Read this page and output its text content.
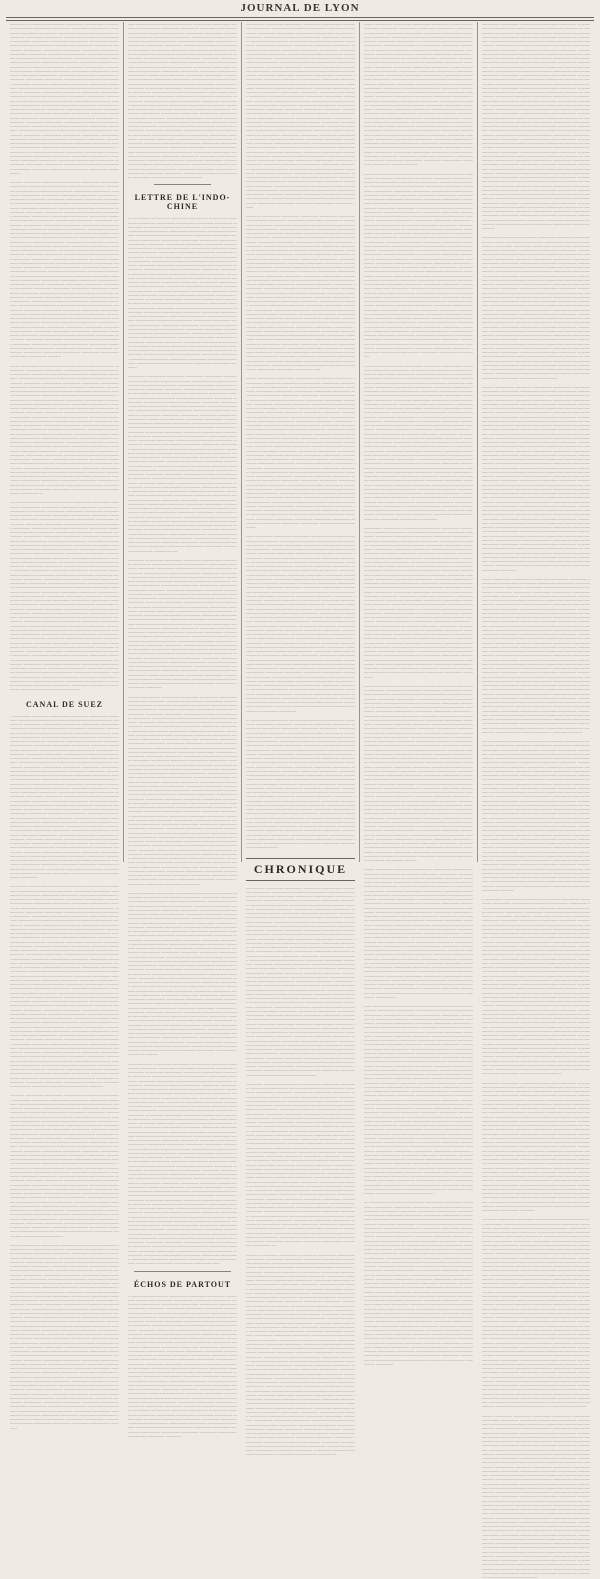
JOURNAL DE LYON
‒‒‒‒‒‒‒‒‒ ‒‒‒‒‒‒‒‒‒‒ ‒‒‒‒‒‒‒‒‒‒ ‒‒‒‒‒‒‒‒‒‒ ‒‒‒‒‒‒‒‒‒‒ ‒‒‒‒‒‒‒‒‒‒ ‒‒‒‒‒‒‒‒‒‒ ‒‒‒‒‒‒‒‒‒‒ ‒‒‒‒‒‒‒‒‒‒ ‒‒‒‒‒‒‒‒‒‒ ‒‒‒‒‒‒‒‒‒‒ ‒‒‒‒‒‒‒‒‒‒ ‒‒‒‒‒‒‒‒‒‒ ‒‒‒‒‒‒‒‒‒‒ ‒‒‒‒‒‒‒‒‒‒ ‒‒‒‒‒‒‒‒‒‒ ‒‒‒‒‒‒‒‒‒‒ ‒‒‒‒‒‒‒‒‒‒ ‒‒‒‒‒‒‒‒‒‒ ‒‒‒‒‒‒‒‒‒‒ ‒‒‒‒‒‒‒‒‒‒ ‒‒‒‒‒‒‒‒‒‒ ‒‒‒‒‒‒‒‒‒‒ ‒‒‒‒‒‒‒‒‒‒ ‒‒‒‒‒‒‒‒‒‒ ‒‒‒‒‒‒‒‒‒‒ ‒‒‒‒‒‒‒‒‒‒ ‒‒‒‒‒‒‒‒‒‒ ‒‒‒‒‒‒‒‒‒‒ ‒‒‒‒‒‒‒‒‒‒ ‒‒‒‒‒‒‒‒‒‒ ‒‒‒‒‒‒‒‒‒‒ ‒‒‒‒‒‒‒‒‒‒ ‒‒‒‒‒‒‒‒‒‒ ‒‒‒‒‒‒‒‒‒‒ ‒‒‒‒‒‒‒‒‒‒ ‒‒‒‒‒‒‒‒‒‒ ‒‒‒‒‒‒‒‒‒‒ ‒‒‒‒‒‒‒‒‒‒ ‒‒‒‒‒‒‒‒‒‒ ‒‒‒‒‒‒‒‒‒‒ ‒‒‒‒‒‒‒‒‒‒ ‒‒‒‒‒‒‒‒‒‒ ‒‒‒‒‒‒‒‒‒‒ ‒‒‒‒‒‒‒‒‒‒ ‒‒‒‒‒‒‒‒‒‒ ‒‒‒‒‒‒‒‒‒‒ ‒‒‒‒‒‒‒‒‒‒ ‒‒‒‒‒‒‒‒‒‒ ‒‒‒‒‒‒‒‒‒‒ ‒‒‒‒‒‒‒‒‒‒ ‒‒‒‒‒‒‒‒‒‒ ‒‒‒‒‒‒‒‒‒‒ ‒‒‒‒‒‒‒‒‒‒ ‒‒‒‒‒‒‒‒‒‒ ‒‒‒‒‒‒‒‒‒‒ ‒‒‒‒‒‒‒‒‒‒ ‒‒‒‒‒‒‒‒‒‒ ‒‒‒‒‒‒‒‒‒‒ ‒‒‒‒‒‒‒‒‒‒ ‒‒‒‒‒‒‒‒‒‒ ‒‒‒‒‒‒‒‒‒‒ ‒‒‒‒‒‒‒‒‒‒ ‒‒‒‒‒‒‒‒‒‒ ‒‒‒‒‒‒‒‒‒‒ ‒‒‒‒‒‒‒‒‒‒ ‒‒‒‒‒‒‒‒‒‒ ‒‒‒‒‒‒‒‒‒‒ ‒‒‒‒‒‒‒‒‒‒ ‒‒‒‒‒‒‒‒‒‒ ‒‒‒‒‒‒‒‒‒‒ ‒‒‒‒‒‒‒‒‒‒ ‒‒‒‒‒‒‒‒‒‒ ‒‒‒‒‒‒‒‒‒‒ ‒‒‒‒‒‒‒‒‒‒ ‒‒‒‒‒‒‒‒‒‒ ‒‒‒‒‒‒‒‒‒‒ ‒‒‒‒‒‒‒‒‒‒ ‒‒‒‒‒‒‒‒‒‒ ‒‒‒‒‒‒‒‒‒‒ ‒‒‒‒‒‒‒‒‒‒ ‒‒‒‒‒‒‒‒‒‒ ‒‒‒‒‒‒‒‒‒‒ ‒‒‒‒‒‒‒‒‒‒ ‒‒‒‒‒‒‒‒‒‒ ‒‒‒‒‒‒‒‒‒‒ ‒‒‒‒‒‒‒‒‒‒ ‒‒‒‒‒‒‒‒‒‒ ‒‒‒‒‒‒‒‒‒‒ ‒‒‒‒‒‒‒‒‒‒ ‒‒‒‒‒‒‒‒‒‒ ‒‒‒‒‒‒‒‒‒‒ ‒‒‒‒‒‒‒‒‒‒ ‒‒‒‒‒‒‒‒‒‒ ‒‒‒‒‒‒‒‒‒‒ ‒‒‒‒‒‒‒‒‒‒ ‒‒‒‒‒‒‒‒‒‒ ‒‒‒‒‒‒‒‒‒‒ ‒‒‒‒‒‒‒‒‒‒ ‒‒‒‒‒‒‒‒‒‒ ‒‒‒‒‒‒‒‒‒‒ ‒‒‒‒‒‒‒‒‒‒ ‒‒‒‒‒‒‒‒‒‒ ‒‒‒‒‒‒‒‒‒‒ ‒‒‒‒‒‒‒‒‒‒ ‒‒‒‒‒‒‒‒‒‒ ‒‒‒‒‒‒‒‒‒‒ ‒‒‒‒‒‒‒‒‒‒ ‒‒‒‒‒‒‒‒‒‒ ‒‒‒‒‒‒‒‒‒‒ ‒‒‒‒‒‒‒‒‒‒ ‒‒‒‒‒‒‒‒‒‒ ‒‒‒‒‒‒‒‒‒‒ ‒‒‒‒‒‒‒‒‒‒ ‒‒‒‒‒‒‒‒‒‒ ‒‒‒‒‒‒‒‒‒‒ ‒‒‒‒‒‒‒‒‒‒ ‒‒‒‒‒‒‒‒‒‒ ‒‒‒‒‒‒‒‒‒‒ ‒‒‒‒‒‒‒‒‒‒ ‒‒‒‒‒‒‒‒‒‒ ‒‒‒‒‒‒‒‒‒‒ ‒‒‒‒‒‒‒‒‒‒ ‒‒‒‒‒‒‒‒‒‒ ‒‒‒‒‒‒‒‒‒‒ ‒‒‒‒‒‒‒‒‒‒ ‒‒‒‒‒‒‒‒‒‒ ‒‒‒‒‒‒‒‒‒‒ ‒‒‒‒‒‒‒‒‒‒ ‒‒‒‒‒‒‒‒‒‒ ‒‒‒‒‒‒‒‒‒‒ ‒‒‒‒‒‒‒‒‒‒ ‒‒‒‒‒‒‒‒‒‒ ‒‒‒‒‒‒‒‒‒‒ ‒‒‒‒‒‒‒‒‒‒ ‒‒‒‒‒‒‒‒‒‒ ‒‒‒‒‒‒‒‒‒‒ ‒‒‒‒‒‒‒‒‒‒ ‒‒‒‒‒‒‒‒‒‒ ‒‒‒‒‒‒‒‒‒‒ ‒‒‒‒‒‒‒‒‒‒ ‒‒‒‒‒‒‒‒‒‒ ‒‒‒‒‒‒‒‒‒‒ ‒‒‒‒‒‒‒‒‒‒ ‒‒‒‒‒‒‒‒‒‒ ‒‒‒‒‒‒‒‒‒‒ ‒‒‒‒‒‒‒‒‒‒ ‒‒‒‒‒‒‒‒‒‒ ‒‒‒‒‒‒‒‒‒‒ ‒‒‒‒‒‒‒‒‒‒ ‒‒‒‒‒‒‒‒‒‒ ‒‒‒‒‒‒‒‒‒‒ ‒‒‒‒‒‒‒‒‒‒ ‒‒‒‒‒‒‒‒‒‒ ‒‒‒‒‒‒‒‒‒‒ ‒‒‒‒‒‒‒‒‒‒ ‒‒‒‒‒‒‒‒‒‒ ‒‒‒‒‒‒‒‒‒‒ ‒‒‒‒‒‒‒‒‒‒ ‒‒‒‒‒‒‒‒‒‒ ‒‒‒‒‒‒‒‒‒‒ ‒‒‒‒‒‒‒‒‒‒ ‒‒‒‒‒‒‒‒‒‒ ‒‒‒‒‒‒‒‒‒‒ ‒‒‒‒‒‒‒‒‒‒ ‒‒‒‒‒‒‒‒‒‒ ‒‒‒‒‒‒‒‒‒‒ ‒‒‒‒‒‒‒‒‒‒ ‒‒‒‒‒‒‒‒‒‒ ‒‒‒‒‒‒‒‒‒‒ ‒‒‒‒‒‒‒‒‒‒ ‒‒‒‒‒‒‒‒‒‒ ‒‒‒‒‒‒‒‒‒‒ ‒‒‒‒‒‒‒‒‒‒ ‒‒‒‒‒‒‒‒‒‒ ‒‒‒‒‒‒‒‒‒‒ ‒‒‒‒‒‒‒‒‒‒ ‒‒‒‒‒‒‒‒‒‒ ‒‒‒‒‒‒‒‒‒‒ ‒‒‒‒‒‒‒‒‒‒ ‒‒‒‒‒‒‒‒‒‒ ‒‒‒‒‒‒‒‒‒‒ ‒‒‒‒‒‒‒‒‒‒ ‒‒‒‒‒‒‒‒‒‒ ‒‒‒‒‒‒‒‒‒‒ ‒‒‒‒‒‒‒‒‒‒ ‒‒‒‒‒‒‒‒‒‒ ‒‒‒‒‒‒‒‒‒‒ ‒‒‒‒‒‒‒‒‒‒ ‒‒‒‒‒‒‒‒‒‒ ‒‒‒‒‒‒‒‒‒‒ ‒‒‒‒‒‒‒‒‒‒ ‒‒‒‒‒‒‒‒‒‒ ‒‒‒‒‒‒‒‒‒‒ ‒‒‒‒‒‒‒‒‒‒ ‒‒‒‒‒‒‒‒‒‒ ‒‒‒‒‒‒‒‒‒‒ ‒‒‒‒‒‒‒‒‒‒ ‒‒‒‒‒‒‒‒‒‒ ‒‒‒‒‒‒‒‒‒‒ ‒
‒‒‒‒‒‒‒ ‒‒‒‒‒‒‒‒‒‒ ‒‒‒‒‒‒‒‒‒‒ ‒‒‒‒‒‒‒‒‒‒ ‒‒‒‒‒‒‒‒‒‒ ‒‒‒‒‒‒‒‒‒‒ ‒‒‒‒‒‒‒‒‒‒ ‒‒‒‒‒‒‒‒‒‒ ‒‒‒‒‒‒‒‒‒‒ ‒‒‒‒‒‒‒‒‒‒ ‒‒‒‒‒‒‒‒‒‒ ‒‒‒‒‒‒‒‒‒‒ ‒‒‒‒‒‒‒‒‒‒ ‒‒‒‒‒‒‒‒‒‒ ‒‒‒‒‒‒‒‒‒‒ ‒‒‒‒‒‒‒‒‒‒ ‒‒‒‒‒‒‒‒‒‒ ‒‒‒‒‒‒‒‒‒‒ ‒‒‒‒‒‒‒‒‒‒ ‒‒‒‒‒‒‒‒‒‒ ‒‒‒‒‒‒‒‒‒‒ ‒‒‒‒‒‒‒‒‒‒ ‒‒‒‒‒‒‒‒‒‒ ‒‒‒‒‒‒‒‒‒‒ ‒‒‒‒‒‒‒‒‒‒ ‒‒‒‒‒‒‒‒‒‒ ‒‒‒‒‒‒‒‒‒‒ ‒‒‒‒‒‒‒‒‒‒ ‒‒‒‒‒‒‒‒‒‒ ‒‒‒‒‒‒‒‒‒‒ ‒‒‒‒‒‒‒‒‒‒ ‒‒‒‒‒‒‒‒‒‒ ‒‒‒‒‒‒‒‒‒‒ ‒‒‒‒‒‒‒‒‒‒ ‒‒‒‒‒‒‒‒‒‒ ‒‒‒‒‒‒‒‒‒‒ ‒‒‒‒‒‒‒‒‒‒ ‒‒‒‒‒‒‒‒‒‒ ‒‒‒‒‒‒‒‒‒‒ ‒‒‒‒‒‒‒‒‒‒ ‒‒‒‒‒‒‒‒‒‒ ‒‒‒‒‒‒‒‒‒‒ ‒‒‒‒‒‒‒‒‒‒ ‒‒‒‒‒‒‒‒‒‒ ‒‒‒‒‒‒‒‒‒‒ ‒‒‒‒‒‒‒‒‒‒ ‒‒‒‒‒‒‒‒‒‒ ‒‒‒‒‒‒‒‒‒‒ ‒‒‒‒‒‒‒‒‒‒ ‒‒‒‒‒‒‒‒‒‒ ‒‒‒‒‒‒‒‒‒‒ ‒‒‒‒‒‒‒‒‒‒ ‒‒‒‒‒‒‒‒‒‒ ‒‒‒‒‒‒‒‒‒‒ ‒‒‒‒‒‒‒‒‒‒ ‒‒‒‒‒‒‒‒‒‒ ‒‒‒‒‒‒‒‒‒‒ ‒‒‒‒‒‒‒‒‒‒ ‒‒‒‒‒‒‒‒‒‒ ‒‒‒‒‒‒‒‒‒‒ ‒‒‒‒‒‒‒‒‒‒ ‒‒‒‒‒‒‒‒‒‒ ‒‒‒‒‒‒‒‒‒‒ ‒‒‒‒‒‒‒‒‒‒ ‒‒‒‒‒‒‒‒‒‒ ‒‒‒‒‒‒‒‒‒‒ ‒‒‒‒‒‒‒‒‒‒ ‒‒‒‒‒‒‒‒‒‒ ‒‒‒‒‒‒‒‒‒‒ ‒‒‒‒‒‒‒‒‒‒ ‒‒‒‒‒‒‒‒‒‒ ‒‒‒‒‒‒‒‒‒‒ ‒‒‒‒‒‒‒‒‒‒ ‒‒‒‒‒‒‒‒‒‒ ‒‒‒‒‒‒‒‒‒‒ ‒‒‒‒‒‒‒‒‒‒ ‒‒‒‒‒‒‒‒‒‒ ‒‒‒‒‒‒‒‒‒‒ ‒‒‒‒‒‒‒‒‒‒ ‒‒‒‒‒‒‒‒‒‒ ‒‒‒‒‒‒‒‒‒‒ ‒‒‒‒‒‒‒‒‒‒ ‒‒‒‒‒‒‒‒‒‒ ‒‒‒‒‒‒‒‒‒‒ ‒‒‒‒‒‒‒‒‒‒ ‒‒‒‒‒‒‒‒‒‒ ‒‒‒‒‒‒‒‒‒‒ ‒‒‒‒‒‒‒‒‒‒ ‒‒‒‒‒‒‒‒‒‒ ‒‒‒‒‒‒‒‒‒‒ ‒‒‒‒‒‒‒‒‒‒ ‒‒‒‒‒‒‒‒‒‒ ‒‒‒‒‒‒‒‒‒‒ ‒‒‒‒‒‒‒‒‒‒ ‒‒‒‒‒‒‒‒‒‒ ‒‒‒‒‒‒‒‒‒‒ ‒‒‒‒‒‒‒‒‒‒ ‒‒‒‒‒‒‒‒‒‒ ‒‒‒‒‒‒‒‒‒‒ ‒‒‒‒‒‒‒‒‒‒ ‒‒‒‒‒‒‒‒‒‒ ‒‒‒‒‒‒‒‒‒‒ ‒‒‒‒‒‒‒‒‒‒ ‒‒‒‒‒‒‒‒‒‒ ‒‒‒‒‒‒‒‒‒‒ ‒‒‒‒‒‒‒‒‒‒ ‒‒‒‒‒‒‒‒‒‒ ‒‒‒‒‒‒‒‒‒‒ ‒‒‒‒‒‒‒‒‒‒ ‒‒‒‒‒‒‒‒‒‒ ‒‒‒‒‒‒‒‒‒‒ ‒‒‒‒‒‒‒‒‒‒ ‒‒‒‒‒‒‒‒‒‒ ‒‒‒‒‒‒‒‒‒‒ ‒‒‒‒‒‒‒‒‒‒ ‒‒‒‒‒‒‒‒‒‒ ‒‒‒‒‒‒‒‒‒‒ ‒‒‒‒‒‒‒‒‒‒ ‒‒‒‒‒‒‒‒‒‒ ‒‒‒‒‒‒‒‒‒‒ ‒‒‒‒‒‒‒‒‒‒ ‒‒‒‒‒‒‒‒‒‒ ‒‒‒‒‒‒‒‒‒‒ ‒‒‒‒‒‒‒‒‒‒ ‒‒‒‒‒‒‒‒‒‒ ‒‒‒‒‒‒‒‒‒‒ ‒‒‒‒‒‒‒‒‒‒ ‒‒‒‒‒‒‒‒‒‒ ‒‒‒‒‒‒‒‒‒‒ ‒‒‒‒‒‒‒‒‒‒ ‒‒‒‒‒‒‒‒‒‒ ‒‒‒‒‒‒‒‒‒‒ ‒‒‒‒‒‒‒‒‒‒ ‒‒‒‒‒‒‒‒‒‒ ‒‒‒‒‒‒‒‒‒‒ ‒‒‒‒‒‒‒‒‒‒ ‒‒‒‒‒‒‒‒‒‒ ‒‒‒‒‒‒‒‒‒‒ ‒‒‒‒‒‒‒‒‒‒ ‒‒‒‒‒‒‒‒‒‒ ‒‒‒‒‒‒‒‒‒‒ ‒‒‒‒‒‒‒‒‒‒ ‒‒‒‒‒‒‒‒‒‒ ‒‒‒‒‒‒‒‒‒‒ ‒‒‒‒‒‒‒‒‒‒ ‒‒‒‒‒‒‒‒‒‒ ‒‒‒‒‒‒‒‒‒‒ ‒‒‒‒‒‒‒‒‒‒ ‒‒‒‒‒‒‒‒‒‒ ‒‒‒‒‒‒‒‒‒‒ ‒‒‒‒‒‒‒‒‒‒ ‒‒‒‒‒‒‒‒‒‒ ‒‒‒‒‒‒‒‒‒‒ ‒‒‒‒‒‒‒‒‒‒ ‒‒‒‒‒‒‒‒‒‒ ‒‒‒‒‒‒‒‒‒‒ ‒‒‒‒‒‒‒‒‒‒ ‒‒‒‒‒‒‒‒‒‒ ‒‒‒‒‒‒‒‒‒‒ ‒‒‒‒‒‒‒‒‒‒ ‒‒‒‒‒‒‒‒‒‒ ‒‒‒‒‒‒‒‒‒‒ ‒‒‒‒‒‒‒‒‒‒ ‒‒‒‒‒‒‒‒‒‒ ‒‒‒‒‒‒‒‒‒‒ ‒‒‒‒‒‒‒‒‒‒ ‒‒‒‒‒‒‒‒‒‒ ‒‒‒‒‒‒‒‒‒‒ ‒‒‒‒‒‒‒‒‒‒ ‒‒‒‒‒‒‒‒‒‒ ‒‒‒‒‒‒‒‒‒‒ ‒‒‒‒‒‒‒‒‒‒ ‒‒‒‒‒‒‒‒‒‒ ‒‒‒‒‒‒‒‒‒‒ ‒‒‒‒‒‒‒‒‒‒ ‒‒‒‒‒‒‒‒‒‒ ‒‒‒‒‒‒‒‒‒‒ ‒‒‒‒‒‒‒‒‒‒ ‒‒‒‒‒‒‒‒‒‒ ‒‒‒‒‒‒‒‒‒‒ ‒‒‒‒‒‒‒‒‒‒ ‒‒‒‒‒‒‒‒‒‒ ‒‒‒‒‒‒‒‒‒‒ ‒‒‒‒‒‒‒‒‒‒ ‒‒‒‒‒‒‒‒‒‒ ‒‒‒‒‒‒‒‒‒‒ ‒‒‒‒‒‒‒‒‒‒ ‒‒‒‒‒‒‒‒‒‒ ‒‒‒‒‒‒‒‒‒‒ ‒‒‒‒‒‒‒‒‒‒ ‒‒‒‒‒‒‒‒‒‒ ‒‒‒‒‒‒‒‒‒‒ ‒‒‒‒‒‒‒‒‒‒ ‒‒‒‒‒‒‒‒‒‒ ‒‒‒‒‒‒‒‒‒‒ ‒‒‒‒‒‒‒‒‒‒ ‒‒‒‒‒‒‒‒‒‒ ‒‒‒‒‒‒‒‒‒‒ ‒‒‒‒‒‒‒‒‒‒ ‒‒‒‒‒‒‒‒‒‒ ‒‒‒‒‒‒‒‒‒‒ ‒‒‒‒‒‒‒‒‒‒ ‒‒‒‒‒‒‒‒‒‒ ‒‒‒‒‒‒‒‒‒‒ ‒‒‒‒‒‒‒‒‒‒ ‒‒‒‒‒‒‒‒‒‒ ‒‒‒‒‒‒‒‒‒‒ ‒‒‒‒‒‒‒‒‒‒ ‒‒‒‒‒‒‒‒‒‒ ‒‒‒‒‒‒‒‒‒‒ ‒‒‒‒‒‒‒‒‒‒ ‒‒‒‒‒‒‒‒‒‒ ‒‒‒‒‒‒‒‒‒‒ ‒‒‒‒‒‒‒‒‒‒ ‒‒‒‒‒‒‒‒‒‒ ‒‒‒‒‒‒‒‒‒‒ ‒‒‒‒‒‒‒‒‒‒ ‒‒‒‒‒‒‒‒‒‒ ‒‒‒‒‒‒‒‒‒‒ ‒‒‒‒‒‒‒‒‒‒ ‒‒‒‒‒‒‒‒‒‒ ‒‒‒‒‒‒‒‒‒‒ ‒‒‒‒‒‒‒‒‒‒ ‒‒‒‒‒‒‒‒‒‒ ‒‒‒‒‒‒‒‒‒‒ ‒‒‒‒‒‒‒‒‒‒ ‒‒‒‒‒‒‒‒‒‒ ‒‒‒‒‒‒‒‒‒‒ ‒‒‒‒‒‒‒‒‒‒ ‒‒‒‒‒‒‒‒‒‒ ‒‒‒‒‒‒‒‒‒‒ ‒‒‒‒‒‒‒‒‒‒ ‒‒‒‒‒‒‒‒‒‒ ‒‒‒‒‒‒‒‒‒‒ ‒‒‒‒‒‒‒‒‒‒ ‒‒‒‒‒‒‒‒‒‒ ‒‒‒‒‒‒‒
‒‒‒‒‒ ‒‒‒‒‒‒‒‒‒‒ ‒‒‒‒‒‒‒‒‒‒ ‒‒‒‒‒‒‒‒‒‒ ‒‒‒‒‒‒‒‒‒‒ ‒‒‒‒‒‒‒‒‒‒ ‒‒‒‒‒‒‒‒‒‒ ‒‒‒‒‒‒‒‒‒‒ ‒‒‒‒‒‒‒‒‒‒ ‒‒‒‒‒‒‒‒‒‒ ‒‒‒‒‒‒‒‒‒‒ ‒‒‒‒‒‒‒‒‒‒ ‒‒‒‒‒‒‒‒‒‒ ‒‒‒‒‒‒‒‒‒‒ ‒‒‒‒‒‒‒‒‒‒ ‒‒‒‒‒‒‒‒‒‒ ‒‒‒‒‒‒‒‒‒‒ ‒‒‒‒‒‒‒‒‒‒ ‒‒‒‒‒‒‒‒‒‒ ‒‒‒‒‒‒‒‒‒‒ ‒‒‒‒‒‒‒‒‒‒ ‒‒‒‒‒‒‒‒‒‒ ‒‒‒‒‒‒‒‒‒‒ ‒‒‒‒‒‒‒‒‒‒ ‒‒‒‒‒‒‒‒‒‒ ‒‒‒‒‒‒‒‒‒‒ ‒‒‒‒‒‒‒‒‒‒ ‒‒‒‒‒‒‒‒‒‒ ‒‒‒‒‒‒‒‒‒‒ ‒‒‒‒‒‒‒‒‒‒ ‒‒‒‒‒‒‒‒‒‒ ‒‒‒‒‒‒‒‒‒‒ ‒‒‒‒‒‒‒‒‒‒ ‒‒‒‒‒‒‒‒‒‒ ‒‒‒‒‒‒‒‒‒‒ ‒‒‒‒‒‒‒‒‒‒ ‒‒‒‒‒‒‒‒‒‒ ‒‒‒‒‒‒‒‒‒‒ ‒‒‒‒‒‒‒‒‒‒ ‒‒‒‒‒‒‒‒‒‒ ‒‒‒‒‒‒‒‒‒‒ ‒‒‒‒‒‒‒‒‒‒ ‒‒‒‒‒‒‒‒‒‒ ‒‒‒‒‒‒‒‒‒‒ ‒‒‒‒‒‒‒‒‒‒ ‒‒‒‒‒‒‒‒‒‒ ‒‒‒‒‒‒‒‒‒‒ ‒‒‒‒‒‒‒‒‒‒ ‒‒‒‒‒‒‒‒‒‒ ‒‒‒‒‒‒‒‒‒‒ ‒‒‒‒‒‒‒‒‒‒ ‒‒‒‒‒‒‒‒‒‒ ‒‒‒‒‒‒‒‒‒‒ ‒‒‒‒‒‒‒‒‒‒ ‒‒‒‒‒‒‒‒‒‒ ‒‒‒‒‒‒‒‒‒‒ ‒‒‒‒‒‒‒‒‒‒ ‒‒‒‒‒‒‒‒‒‒ ‒‒‒‒‒‒‒‒‒‒ ‒‒‒‒‒‒‒‒‒‒ ‒‒‒‒‒‒‒‒‒‒ ‒‒‒‒‒‒‒‒‒‒ ‒‒‒‒‒‒‒‒‒‒ ‒‒‒‒‒‒‒‒‒‒ ‒‒‒‒‒‒‒‒‒‒ ‒‒‒‒‒‒‒‒‒‒ ‒‒‒‒‒‒‒‒‒‒ ‒‒‒‒‒‒‒‒‒‒ ‒‒‒‒‒‒‒‒‒‒ ‒‒‒‒‒‒‒‒‒‒ ‒‒‒‒‒‒‒‒‒‒ ‒‒‒‒‒‒‒‒‒‒ ‒‒‒‒‒‒‒‒‒‒ ‒‒‒‒‒‒‒‒‒‒ ‒‒‒‒‒‒‒‒‒‒ ‒‒‒‒‒‒‒‒‒‒ ‒‒‒‒‒‒‒‒‒‒ ‒‒‒‒‒‒‒‒‒‒ ‒‒‒‒‒‒‒‒‒‒ ‒‒‒‒‒‒‒‒‒‒ ‒‒‒‒‒‒‒‒‒‒ ‒‒‒‒‒‒‒‒‒‒ ‒‒‒‒‒‒‒‒‒‒ ‒‒‒‒‒‒‒‒‒‒ ‒‒‒‒‒‒‒‒‒‒ ‒‒‒‒‒‒‒‒‒‒ ‒‒‒‒‒‒‒‒‒‒ ‒‒‒‒‒‒‒‒‒‒ ‒‒‒‒‒‒‒‒‒‒ ‒‒‒‒‒‒‒‒‒‒ ‒‒‒‒‒‒‒‒‒‒ ‒‒‒‒‒‒‒‒‒‒ ‒‒‒‒‒‒‒‒‒‒ ‒‒‒‒‒‒‒‒‒‒ ‒‒‒‒‒‒‒‒‒‒ ‒‒‒‒‒‒‒‒‒‒ ‒‒‒‒‒‒‒‒‒‒ ‒‒‒‒‒‒‒‒‒‒ ‒‒‒‒‒‒‒‒‒‒ ‒‒‒‒‒‒‒‒‒‒ ‒‒‒‒‒‒‒‒‒‒ ‒‒‒‒‒‒‒‒‒‒ ‒‒‒‒‒‒‒‒‒‒ ‒‒‒‒‒‒‒‒‒‒ ‒‒‒‒‒‒‒‒‒‒ ‒‒‒‒‒‒‒‒‒‒ ‒‒‒‒‒‒‒‒‒‒ ‒‒‒‒‒‒‒‒‒‒ ‒‒‒‒‒‒‒‒‒‒ ‒‒‒‒‒‒‒‒‒‒ ‒‒‒‒‒‒‒‒‒‒ ‒‒‒‒‒‒‒‒‒‒ ‒‒‒‒‒‒‒‒‒‒ ‒‒‒‒‒‒‒‒‒‒ ‒‒‒‒‒‒‒‒‒‒ ‒‒‒‒‒‒‒‒‒‒ ‒‒‒‒‒‒‒‒‒‒ ‒‒‒‒‒‒‒‒‒‒ ‒‒‒‒‒‒‒‒‒‒ ‒‒‒‒‒‒‒‒‒‒ ‒‒‒‒‒‒‒‒‒‒ ‒‒‒‒‒‒‒‒‒‒ ‒‒‒‒‒‒‒‒‒‒ ‒‒‒‒‒‒‒‒‒‒ ‒‒‒‒‒‒‒‒‒‒ ‒‒‒‒‒‒‒‒‒‒ ‒‒‒‒‒‒‒‒‒‒ ‒‒‒‒‒‒‒‒‒‒ ‒‒‒‒‒‒‒‒‒‒ ‒‒‒‒‒‒‒‒‒‒ ‒‒‒‒‒‒‒‒‒‒ ‒‒‒‒‒‒‒‒‒‒ ‒‒‒‒‒‒‒‒‒‒ ‒‒‒‒‒‒‒‒‒‒ ‒‒‒‒‒‒‒‒‒‒ ‒‒‒‒‒‒‒‒‒‒ ‒‒‒‒‒‒‒‒‒‒ ‒‒‒‒‒‒‒‒‒‒ ‒‒‒‒‒‒‒‒‒‒ ‒‒‒‒‒‒‒‒‒‒ ‒‒‒‒‒‒‒‒‒‒ ‒‒‒‒‒‒‒‒‒‒ ‒‒‒‒‒‒‒‒‒‒ ‒‒‒‒‒‒‒‒‒‒ ‒‒‒‒‒‒‒‒‒‒ ‒‒‒‒‒‒‒‒‒‒ ‒‒‒‒‒‒‒‒‒‒ ‒‒‒‒‒‒‒‒‒‒ ‒‒‒‒‒‒‒‒‒‒ ‒‒‒‒‒‒‒‒‒‒ ‒‒‒‒‒‒‒‒‒‒ ‒‒‒‒‒‒‒‒‒‒ ‒‒‒‒‒‒‒‒‒‒ ‒‒‒‒‒‒‒‒‒‒ ‒‒‒‒‒‒‒‒‒‒ ‒‒‒‒‒‒‒‒‒‒ ‒‒‒‒‒‒‒‒‒‒ ‒‒‒‒‒‒‒‒‒‒ ‒‒‒‒‒‒‒‒‒‒ ‒‒‒‒‒‒‒‒‒‒ ‒‒‒‒‒‒‒‒‒‒ ‒‒‒‒‒‒‒‒‒‒ ‒‒‒‒‒‒‒‒‒‒ ‒‒‒‒‒‒‒‒‒‒ ‒‒‒‒‒‒‒‒‒‒ ‒‒‒‒‒‒‒‒‒‒ ‒‒‒‒‒‒‒‒‒‒ ‒‒‒‒‒‒‒‒‒‒ ‒‒‒‒‒‒‒‒‒‒ ‒‒‒‒‒‒‒‒‒‒ ‒‒‒‒‒‒‒‒‒‒ ‒‒‒‒‒‒‒‒‒‒ ‒‒‒‒‒‒‒‒‒‒ ‒‒
‒‒‒ ‒‒‒‒‒‒‒‒‒‒ ‒‒‒‒‒‒‒‒‒‒ ‒‒‒‒‒‒‒‒‒‒ ‒‒‒‒‒‒‒‒‒‒ ‒‒‒‒‒‒‒‒‒‒ ‒‒‒‒‒‒‒‒‒‒ ‒‒‒‒‒‒‒‒‒‒ ‒‒‒‒‒‒‒‒‒‒ ‒‒‒‒‒‒‒‒‒‒ ‒‒‒‒‒‒‒‒‒‒ ‒‒‒‒‒‒‒‒‒‒ ‒‒‒‒‒‒‒‒‒‒ ‒‒‒‒‒‒‒‒‒‒ ‒‒‒‒‒‒‒‒‒‒ ‒‒‒‒‒‒‒‒‒‒ ‒‒‒‒‒‒‒‒‒‒ ‒‒‒‒‒‒‒‒‒‒ ‒‒‒‒‒‒‒‒‒‒ ‒‒‒‒‒‒‒‒‒‒ ‒‒‒‒‒‒‒‒‒‒ ‒‒‒‒‒‒‒‒‒‒ ‒‒‒‒‒‒‒‒‒‒ ‒‒‒‒‒‒‒‒‒‒ ‒‒‒‒‒‒‒‒‒‒ ‒‒‒‒‒‒‒‒‒‒ ‒‒‒‒‒‒‒‒‒‒ ‒‒‒‒‒‒‒‒‒‒ ‒‒‒‒‒‒‒‒‒‒ ‒‒‒‒‒‒‒‒‒‒ ‒‒‒‒‒‒‒‒‒‒ ‒‒‒‒‒‒‒‒‒‒ ‒‒‒‒‒‒‒‒‒‒ ‒‒‒‒‒‒‒‒‒‒ ‒‒‒‒‒‒‒‒‒‒ ‒‒‒‒‒‒‒‒‒‒ ‒‒‒‒‒‒‒‒‒‒ ‒‒‒‒‒‒‒‒‒‒ ‒‒‒‒‒‒‒‒‒‒ ‒‒‒‒‒‒‒‒‒‒ ‒‒‒‒‒‒‒‒‒‒ ‒‒‒‒‒‒‒‒‒‒ ‒‒‒‒‒‒‒‒‒‒ ‒‒‒‒‒‒‒‒‒‒ ‒‒‒‒‒‒‒‒‒‒ ‒‒‒‒‒‒‒‒‒‒ ‒‒‒‒‒‒‒‒‒‒ ‒‒‒‒‒‒‒‒‒‒ ‒‒‒‒‒‒‒‒‒‒ ‒‒‒‒‒‒‒‒‒‒ ‒‒‒‒‒‒‒‒‒‒ ‒‒‒‒‒‒‒‒‒‒ ‒‒‒‒‒‒‒‒‒‒ ‒‒‒‒‒‒‒‒‒‒ ‒‒‒‒‒‒‒‒‒‒ ‒‒‒‒‒‒‒‒‒‒ ‒‒‒‒‒‒‒‒‒‒ ‒‒‒‒‒‒‒‒‒‒ ‒‒‒‒‒‒‒‒‒‒ ‒‒‒‒‒‒‒‒‒‒ ‒‒‒‒‒‒‒‒‒‒ ‒‒‒‒‒‒‒‒‒‒ ‒‒‒‒‒‒‒‒‒‒ ‒‒‒‒‒‒‒‒‒‒ ‒‒‒‒‒‒‒‒‒‒ ‒‒‒‒‒‒‒‒‒‒ ‒‒‒‒‒‒‒‒‒‒ ‒‒‒‒‒‒‒‒‒‒ ‒‒‒‒‒‒‒‒‒‒ ‒‒‒‒‒‒‒‒‒‒ ‒‒‒‒‒‒‒‒‒‒ ‒‒‒‒‒‒‒‒‒‒ ‒‒‒‒‒‒‒‒‒‒ ‒‒‒‒‒‒‒‒‒‒ ‒‒‒‒‒‒‒‒‒‒ ‒‒‒‒‒‒‒‒‒‒ ‒‒‒‒‒‒‒‒‒‒ ‒‒‒‒‒‒‒‒‒‒ ‒‒‒‒‒‒‒‒‒‒ ‒‒‒‒‒‒‒‒‒‒ ‒‒‒‒‒‒‒‒‒‒ ‒‒‒‒‒‒‒‒‒‒ ‒‒‒‒‒‒‒‒‒‒ ‒‒‒‒‒‒‒‒‒‒ ‒‒‒‒‒‒‒‒‒‒ ‒‒‒‒‒‒‒‒‒‒ ‒‒‒‒‒‒‒‒‒‒ ‒‒‒‒‒‒‒‒‒‒ ‒‒‒‒‒‒‒‒‒‒ ‒‒‒‒‒‒‒‒‒‒ ‒‒‒‒‒‒‒‒‒‒ ‒‒‒‒‒‒‒‒‒‒ ‒‒‒‒‒‒‒‒‒‒ ‒‒‒‒‒‒‒‒‒‒ ‒‒‒‒‒‒‒‒‒‒ ‒‒‒‒‒‒‒‒‒‒ ‒‒‒‒‒‒‒‒‒‒ ‒‒‒‒‒‒‒‒‒‒ ‒‒‒‒‒‒‒‒‒‒ ‒‒‒‒‒‒‒‒‒‒ ‒‒‒‒‒‒‒‒‒‒ ‒‒‒‒‒‒‒‒‒‒ ‒‒‒‒‒‒‒‒‒‒ ‒‒‒‒‒‒‒‒‒‒ ‒‒‒‒‒‒‒‒‒‒ ‒‒‒‒‒‒‒‒‒‒ ‒‒‒‒‒‒‒‒‒‒ ‒‒‒‒‒‒‒‒‒‒ ‒‒‒‒‒‒‒‒‒‒ ‒‒‒‒‒‒‒‒‒‒ ‒‒‒‒‒‒‒‒‒‒ ‒‒‒‒‒‒‒‒‒‒ ‒‒‒‒‒‒‒‒‒‒ ‒‒‒‒‒‒‒‒‒‒ ‒‒‒‒‒‒‒‒‒‒ ‒‒‒‒‒‒‒‒‒‒ ‒‒‒‒‒‒‒‒‒‒ ‒‒‒‒‒‒‒‒‒‒ ‒‒‒‒‒‒‒‒‒‒ ‒‒‒‒‒‒‒‒‒‒ ‒‒‒‒‒‒‒‒‒‒ ‒‒‒‒‒‒‒‒‒‒ ‒‒‒‒‒‒‒‒‒‒ ‒‒‒‒‒‒‒‒‒‒ ‒‒‒‒‒‒‒‒‒‒ ‒‒‒‒‒‒‒‒‒‒ ‒‒‒‒‒‒‒‒‒‒ ‒‒‒‒‒‒‒‒‒‒ ‒‒‒‒‒‒‒‒‒‒ ‒‒‒‒‒‒‒‒‒‒ ‒‒‒‒‒‒‒‒‒‒ ‒‒‒‒‒‒‒‒‒‒ ‒‒‒‒‒‒‒‒‒‒ ‒‒‒‒‒‒‒‒‒‒ ‒‒‒‒‒‒‒‒‒‒ ‒‒‒‒‒‒‒‒‒‒ ‒‒‒‒‒‒‒‒‒‒ ‒‒‒‒‒‒‒‒‒‒ ‒‒‒‒‒‒‒‒‒‒ ‒‒‒‒‒‒‒‒‒‒ ‒‒‒‒‒‒‒‒‒‒ ‒‒‒‒‒‒‒‒‒‒ ‒‒‒‒‒‒‒‒‒‒ ‒‒‒‒‒‒‒‒‒‒ ‒‒‒‒‒‒‒‒‒‒ ‒‒‒‒‒‒‒‒‒‒ ‒‒‒‒‒‒‒‒‒‒ ‒‒‒‒‒‒‒‒‒‒ ‒‒‒‒‒‒‒‒‒‒ ‒‒‒‒‒‒‒‒‒‒ ‒‒‒‒‒‒‒‒‒‒ ‒‒‒‒‒‒‒‒‒‒ ‒‒‒‒‒‒‒‒‒‒ ‒‒‒‒‒‒‒‒‒‒ ‒‒‒‒‒‒‒‒‒‒ ‒‒‒‒‒‒‒‒‒‒ ‒‒‒‒‒‒‒‒‒‒ ‒‒‒‒‒‒‒‒‒‒ ‒‒‒‒‒‒‒‒‒‒ ‒‒‒‒‒‒‒‒‒‒ ‒‒‒‒‒‒‒‒‒‒ ‒‒‒‒‒‒‒‒‒‒ ‒‒‒‒‒‒‒‒‒‒ ‒‒‒‒‒‒‒‒‒‒ ‒‒‒‒‒‒‒‒‒‒ ‒‒‒‒‒‒‒‒‒‒ ‒‒‒‒‒‒‒‒‒‒ ‒‒‒‒‒‒‒‒‒‒ ‒‒‒‒‒‒‒‒‒‒ ‒‒‒‒‒‒‒‒‒‒ ‒‒‒‒‒‒‒‒‒‒ ‒‒‒‒‒‒‒‒‒‒ ‒‒‒‒‒‒‒‒‒‒ ‒‒‒‒‒‒‒‒‒‒ ‒‒‒‒‒‒‒‒‒‒ ‒‒‒‒‒‒‒‒‒‒ ‒‒‒‒‒‒‒‒‒‒ ‒‒‒‒‒‒‒‒‒‒ ‒‒‒‒‒‒‒‒‒‒ ‒‒‒‒‒‒‒‒‒‒ ‒‒‒‒‒‒‒‒‒‒ ‒‒‒‒‒‒‒‒‒‒ ‒‒‒‒‒‒‒‒‒‒ ‒‒‒‒‒‒‒‒‒‒ ‒‒‒‒‒‒‒‒‒‒ ‒‒‒‒‒‒‒‒‒‒ ‒‒‒‒‒‒‒‒‒‒ ‒‒‒‒‒‒‒‒‒‒ ‒‒‒‒‒‒‒‒‒‒ ‒‒‒‒‒‒‒‒‒‒ ‒‒‒‒‒‒‒‒‒‒ ‒‒‒‒‒‒‒‒‒‒ ‒‒‒‒‒‒‒‒‒‒ ‒‒‒‒‒‒‒‒‒‒ ‒‒‒‒‒‒‒‒‒‒ ‒‒‒‒‒‒‒‒‒‒ ‒‒‒‒‒‒‒‒‒‒ ‒‒‒‒‒‒‒‒‒‒ ‒‒‒‒‒‒‒‒‒‒ ‒‒‒‒‒‒‒‒‒‒ ‒‒‒‒‒‒‒‒‒‒ ‒‒‒‒‒‒‒‒‒‒ ‒‒‒‒‒‒‒‒‒‒ ‒‒‒‒‒‒‒‒‒‒ ‒‒‒‒‒‒‒‒‒‒ ‒‒‒‒‒‒‒‒‒‒ ‒‒‒‒‒‒‒‒‒‒ ‒‒‒‒‒‒‒‒‒‒ ‒‒‒‒‒‒‒‒‒‒ ‒‒‒‒‒‒‒‒‒‒ ‒‒‒‒‒‒‒‒‒‒ ‒‒‒‒‒‒‒‒‒‒ ‒‒‒‒‒‒‒‒‒‒ ‒‒‒‒‒‒‒‒‒‒ ‒‒‒‒‒‒‒‒‒‒ ‒‒‒‒‒‒‒‒‒‒ ‒‒‒‒‒‒‒‒‒‒ ‒‒‒‒‒‒‒‒‒‒ ‒‒‒‒‒‒‒‒‒‒ ‒‒‒‒‒‒‒‒‒‒ ‒‒‒‒‒‒‒‒‒‒ ‒‒‒‒‒‒‒‒‒‒ ‒‒‒‒‒‒‒‒‒‒ ‒‒‒‒‒‒‒‒‒‒ ‒‒‒‒‒‒‒‒‒‒ ‒‒‒‒‒‒‒‒‒‒ ‒‒‒‒‒‒‒‒‒‒ ‒‒‒‒‒‒‒‒‒‒ ‒‒‒‒‒‒‒‒‒‒ ‒‒‒‒‒‒‒‒‒‒ ‒‒‒‒‒‒‒‒‒‒ ‒‒‒‒‒‒‒‒‒‒ ‒‒‒‒‒‒‒‒‒‒ ‒‒‒‒‒‒‒‒‒‒ ‒‒‒‒‒‒‒‒‒‒ ‒‒‒‒‒‒‒‒‒‒ ‒‒‒‒‒‒‒‒‒‒ ‒‒‒‒‒‒‒‒‒‒ ‒‒‒‒‒‒‒‒‒‒ ‒‒‒‒‒‒‒‒‒‒ ‒‒‒‒‒‒‒‒‒‒ ‒‒‒‒‒‒‒‒‒‒ ‒‒‒‒‒‒‒‒‒‒ ‒‒‒‒‒‒‒‒‒‒ ‒‒‒‒‒‒‒‒‒‒ ‒‒‒‒‒‒‒‒‒‒ ‒‒‒‒‒‒‒‒‒‒ ‒‒‒‒‒‒‒‒‒‒ ‒‒‒‒‒‒‒‒‒‒ ‒‒‒‒‒‒‒‒‒‒ ‒‒‒‒‒‒‒‒‒‒ ‒‒‒‒‒‒‒‒‒‒ ‒‒‒‒‒‒‒‒‒‒ ‒‒‒‒‒‒‒‒‒‒ ‒‒‒‒‒‒‒‒‒‒ ‒‒
CANAL DE SUEZ
‒ ‒‒‒‒‒‒‒‒‒‒ ‒‒‒‒‒‒‒‒‒‒ ‒‒‒‒‒‒‒‒‒‒ ‒‒‒‒‒‒‒‒‒‒ ‒‒‒‒‒‒‒‒‒‒ ‒‒‒‒‒‒‒‒‒‒ ‒‒‒‒‒‒‒‒‒‒ ‒‒‒‒‒‒‒‒‒‒ ‒‒‒‒‒‒‒‒‒‒ ‒‒‒‒‒‒‒‒‒‒ ‒‒‒‒‒‒‒‒‒‒ ‒‒‒‒‒‒‒‒‒‒ ‒‒‒‒‒‒‒‒‒‒ ‒‒‒‒‒‒‒‒‒‒ ‒‒‒‒‒‒‒‒‒‒ ‒‒‒‒‒‒‒‒‒‒ ‒‒‒‒‒‒‒‒‒‒ ‒‒‒‒‒‒‒‒‒‒ ‒‒‒‒‒‒‒‒‒‒ ‒‒‒‒‒‒‒‒‒‒ ‒‒‒‒‒‒‒‒‒‒ ‒‒‒‒‒‒‒‒‒‒ ‒‒‒‒‒‒‒‒‒‒ ‒‒‒‒‒‒‒‒‒‒ ‒‒‒‒‒‒‒‒‒‒ ‒‒‒‒‒‒‒‒‒‒ ‒‒‒‒‒‒‒‒‒‒ ‒‒‒‒‒‒‒‒‒‒ ‒‒‒‒‒‒‒‒‒‒ ‒‒‒‒‒‒‒‒‒‒ ‒‒‒‒‒‒‒‒‒‒ ‒‒‒‒‒‒‒‒‒‒ ‒‒‒‒‒‒‒‒‒‒ ‒‒‒‒‒‒‒‒‒‒ ‒‒‒‒‒‒‒‒‒‒ ‒‒‒‒‒‒‒‒‒‒ ‒‒‒‒‒‒‒‒‒‒ ‒‒‒‒‒‒‒‒‒‒ ‒‒‒‒‒‒‒‒‒‒ ‒‒‒‒‒‒‒‒‒‒ ‒‒‒‒‒‒‒‒‒‒ ‒‒‒‒‒‒‒‒‒‒ ‒‒‒‒‒‒‒‒‒‒ ‒‒‒‒‒‒‒‒‒‒ ‒‒‒‒‒‒‒‒‒‒ ‒‒‒‒‒‒‒‒‒‒ ‒‒‒‒‒‒‒‒‒‒ ‒‒‒‒‒‒‒‒‒‒ ‒‒‒‒‒‒‒‒‒‒ ‒‒‒‒‒‒‒‒‒‒ ‒‒‒‒‒‒‒‒‒‒ ‒‒‒‒‒‒‒‒‒‒ ‒‒‒‒‒‒‒‒‒‒ ‒‒‒‒‒‒‒‒‒‒ ‒‒‒‒‒‒‒‒‒‒ ‒‒‒‒‒‒‒‒‒‒ ‒‒‒‒‒‒‒‒‒‒ ‒‒‒‒‒‒‒‒‒‒ ‒‒‒‒‒‒‒‒‒‒ ‒‒‒‒‒‒‒‒‒‒ ‒‒‒‒‒‒‒‒‒‒ ‒‒‒‒‒‒‒‒‒‒ ‒‒‒‒‒‒‒‒‒‒ ‒‒‒‒‒‒‒‒‒‒ ‒‒‒‒‒‒‒‒‒‒ ‒‒‒‒‒‒‒‒‒‒ ‒‒‒‒‒‒‒‒‒‒ ‒‒‒‒‒‒‒‒‒‒ ‒‒‒‒‒‒‒‒‒‒ ‒‒‒‒‒‒‒‒‒‒ ‒‒‒‒‒‒‒‒‒‒ ‒‒‒‒‒‒‒‒‒‒ ‒‒‒‒‒‒‒‒‒‒ ‒‒‒‒‒‒‒‒‒‒ ‒‒‒‒‒‒‒‒‒‒ ‒‒‒‒‒‒‒‒‒‒ ‒‒‒‒‒‒‒‒‒‒ ‒‒‒‒‒‒‒‒‒‒ ‒‒‒‒‒‒‒‒‒‒ ‒‒‒‒‒‒‒‒‒‒ ‒‒‒‒‒‒‒‒‒‒ ‒‒‒‒‒‒‒‒‒‒ ‒‒‒‒‒‒‒‒‒‒ ‒‒‒‒‒‒‒‒‒‒ ‒‒‒‒‒‒‒‒‒‒ ‒‒‒‒‒‒‒‒‒‒ ‒‒‒‒‒‒‒‒‒‒ ‒‒‒‒‒‒‒‒‒‒ ‒‒‒‒‒‒‒‒‒‒ ‒‒‒‒‒‒‒‒‒‒ ‒‒‒‒‒‒‒‒‒‒ ‒‒‒‒‒‒‒‒‒‒ ‒‒‒‒‒‒‒‒‒‒ ‒‒‒‒‒‒‒‒‒‒ ‒‒‒‒‒‒‒‒‒‒ ‒‒‒‒‒‒‒‒‒‒ ‒‒‒‒‒‒‒‒‒‒ ‒‒‒‒‒‒‒‒‒‒ ‒‒‒‒‒‒‒‒‒‒ ‒‒‒‒‒‒‒‒‒‒ ‒‒‒‒‒‒‒‒‒‒ ‒‒‒‒‒‒‒‒‒‒ ‒‒‒‒‒‒‒‒‒‒ ‒‒‒‒‒‒‒‒‒‒ ‒‒‒‒‒‒‒‒‒‒ ‒‒‒‒‒‒‒‒‒‒ ‒‒‒‒‒‒‒‒‒‒ ‒‒‒‒‒‒‒‒‒‒ ‒‒‒‒‒‒‒‒‒‒ ‒‒‒‒‒‒‒‒‒‒ ‒‒‒‒‒‒‒‒‒‒ ‒‒‒‒‒‒‒‒‒‒ ‒‒‒‒‒‒‒‒‒‒ ‒‒‒‒‒‒‒‒‒‒ ‒‒‒‒‒‒‒‒‒‒ ‒‒‒‒‒‒‒‒‒‒ ‒‒‒‒‒‒‒‒‒‒ ‒‒‒‒‒‒‒‒‒‒ ‒‒‒‒‒‒‒‒‒‒ ‒‒‒‒‒‒‒‒‒‒ ‒‒‒‒‒‒‒‒‒‒ ‒‒‒‒‒‒‒‒‒‒ ‒‒‒‒‒‒‒‒‒‒ ‒‒‒‒‒‒‒‒‒‒ ‒‒‒‒‒‒‒‒‒‒ ‒‒‒‒‒‒‒‒‒‒ ‒‒‒‒‒‒‒‒‒‒ ‒‒‒‒‒‒‒‒‒‒ ‒‒‒‒‒‒‒‒‒‒ ‒‒‒‒‒‒‒‒‒‒ ‒‒‒‒‒‒‒‒‒‒ ‒‒‒‒‒‒‒‒‒‒ ‒‒‒‒‒‒‒‒‒‒ ‒‒‒‒‒‒‒‒‒‒ ‒‒‒‒‒‒‒‒‒‒ ‒‒‒‒‒‒‒‒‒‒ ‒‒‒‒‒‒‒‒‒‒ ‒‒‒‒‒‒‒‒‒‒ ‒‒‒‒‒‒‒‒‒‒ ‒‒‒‒‒‒‒‒‒‒ ‒‒‒‒‒‒‒‒‒‒ ‒‒‒‒‒‒‒‒‒‒ ‒‒‒‒‒‒‒‒‒‒ ‒‒‒‒‒‒‒‒‒‒ ‒‒‒‒‒‒‒‒‒‒ ‒‒‒‒‒‒‒‒‒‒ ‒‒‒‒‒‒‒‒‒‒ ‒‒‒‒‒‒‒‒‒‒ ‒‒‒‒‒‒‒‒‒‒ ‒‒‒‒‒‒‒‒‒‒ ‒‒‒‒‒‒‒‒‒‒ ‒‒‒‒‒‒‒‒‒‒ ‒‒‒‒‒‒‒‒‒‒ ‒‒‒‒‒‒‒‒‒‒ ‒‒‒‒‒‒‒‒‒‒ ‒‒‒‒‒‒‒‒‒‒ ‒‒‒‒‒‒‒‒‒‒ ‒‒‒‒‒‒‒‒‒‒ ‒‒‒‒‒‒‒‒‒‒ ‒‒‒‒‒‒‒‒‒‒ ‒‒‒‒‒‒‒‒‒‒ ‒‒‒‒‒‒‒‒‒‒ ‒‒‒‒‒‒‒‒‒‒ ‒‒‒‒‒‒‒‒‒‒ ‒‒‒‒‒‒‒‒‒‒ ‒‒‒‒‒‒‒‒‒‒ ‒‒‒‒‒‒‒‒‒‒ ‒‒‒‒‒‒‒‒‒‒ ‒‒‒‒‒‒‒‒‒‒ ‒‒‒‒‒‒‒‒‒‒ ‒‒‒‒‒‒‒‒‒‒ ‒‒‒‒‒‒‒‒‒‒ ‒‒‒‒‒‒‒‒‒‒ ‒‒‒‒‒‒‒‒‒‒ ‒‒‒‒‒‒‒‒‒‒ ‒‒‒‒‒‒‒‒‒‒ ‒‒‒‒‒‒‒‒‒‒ ‒‒‒‒‒‒‒‒‒‒ ‒‒‒‒‒‒‒‒‒‒ ‒‒‒‒‒‒‒‒‒‒ ‒‒‒‒‒‒‒‒‒‒ ‒‒‒‒‒‒‒‒‒‒ ‒‒‒‒‒‒‒‒‒‒ ‒‒‒‒‒‒‒‒‒‒ ‒‒‒‒‒‒‒‒‒‒ ‒‒‒‒‒‒‒‒‒‒ ‒‒‒‒‒‒‒‒‒‒ ‒‒‒‒‒‒‒‒‒‒ ‒‒‒‒‒‒‒‒‒‒ ‒‒‒‒‒‒‒‒‒‒ ‒‒‒‒‒‒‒‒‒‒ ‒‒‒‒‒‒‒‒‒‒ ‒‒‒‒‒‒‒‒‒‒ ‒‒‒‒‒‒‒‒‒‒ ‒‒‒‒‒‒‒‒‒‒ ‒‒‒‒‒‒‒‒‒‒ ‒‒‒‒‒‒‒‒‒‒ ‒‒‒‒‒‒‒‒‒‒ ‒‒‒‒‒‒‒‒‒‒ ‒‒‒‒‒‒‒‒‒‒ ‒‒‒‒‒‒‒‒‒‒ ‒‒‒‒‒‒‒‒‒‒ ‒‒‒‒‒‒‒‒‒‒ ‒‒‒‒‒‒‒‒‒‒ ‒‒‒‒‒‒‒‒‒‒ ‒‒‒‒‒‒‒‒‒‒ ‒‒‒‒‒‒‒‒‒‒ ‒‒‒‒‒‒‒‒‒‒ ‒‒‒‒‒‒‒‒‒‒ ‒‒‒‒‒‒‒‒‒‒ ‒‒‒‒‒‒‒‒‒‒ ‒‒‒‒‒‒‒‒‒‒ ‒‒‒‒‒‒‒‒‒‒ ‒‒‒‒‒‒‒‒‒‒ ‒‒‒‒‒‒‒‒‒‒ ‒‒‒‒‒‒‒‒‒‒ ‒‒‒‒‒‒‒‒‒‒ ‒‒‒‒‒‒‒‒‒‒
‒‒‒‒‒‒‒‒‒‒ ‒‒‒‒‒‒‒‒‒‒ ‒‒‒‒‒‒‒‒‒‒ ‒‒‒‒‒‒‒‒‒‒ ‒‒‒‒‒‒‒‒‒‒ ‒‒‒‒‒‒‒‒‒‒ ‒‒‒‒‒‒‒‒‒‒ ‒‒‒‒‒‒‒‒‒‒ ‒‒‒‒‒‒‒‒‒‒ ‒‒‒‒‒‒‒‒‒‒ ‒‒‒‒‒‒‒‒‒‒ ‒‒‒‒‒‒‒‒‒‒ ‒‒‒‒‒‒‒‒‒‒ ‒‒‒‒‒‒‒‒‒‒ ‒‒‒‒‒‒‒‒‒‒ ‒‒‒‒‒‒‒‒‒‒ ‒‒‒‒‒‒‒‒‒‒ ‒‒‒‒‒‒‒‒‒‒ ‒‒‒‒‒‒‒‒‒‒ ‒‒‒‒‒‒‒‒‒‒ ‒‒‒‒‒‒‒‒‒‒ ‒‒‒‒‒‒‒‒‒‒ ‒‒‒‒‒‒‒‒‒‒ ‒‒‒‒‒‒‒‒‒‒ ‒‒‒‒‒‒‒‒‒‒ ‒‒‒‒‒‒‒‒‒‒ ‒‒‒‒‒‒‒‒‒‒ ‒‒‒‒‒‒‒‒‒‒ ‒‒‒‒‒‒‒‒‒‒ ‒‒‒‒‒‒‒‒‒‒ ‒‒‒‒‒‒‒‒‒‒ ‒‒‒‒‒‒‒‒‒‒ ‒‒‒‒‒‒‒‒‒‒ ‒‒‒‒‒‒‒‒‒‒ ‒‒‒‒‒‒‒‒‒‒ ‒‒‒‒‒‒‒‒‒‒ ‒‒‒‒‒‒‒‒‒‒ ‒‒‒‒‒‒‒‒‒‒ ‒‒‒‒‒‒‒‒‒‒ ‒‒‒‒‒‒‒‒‒‒ ‒‒‒‒‒‒‒‒‒‒ ‒‒‒‒‒‒‒‒‒‒ ‒‒‒‒‒‒‒‒‒‒ ‒‒‒‒‒‒‒‒‒‒ ‒‒‒‒‒‒‒‒‒‒ ‒‒‒‒‒‒‒‒‒‒ ‒‒‒‒‒‒‒‒‒‒ ‒‒‒‒‒‒‒‒‒‒ ‒‒‒‒‒‒‒‒‒‒ ‒‒‒‒‒‒‒‒‒‒ ‒‒‒‒‒‒‒‒‒‒ ‒‒‒‒‒‒‒‒‒‒ ‒‒‒‒‒‒‒‒‒‒ ‒‒‒‒‒‒‒‒‒‒ ‒‒‒‒‒‒‒‒‒‒ ‒‒‒‒‒‒‒‒‒‒ ‒‒‒‒‒‒‒‒‒‒ ‒‒‒‒‒‒‒‒‒‒ ‒‒‒‒‒‒‒‒‒‒ ‒‒‒‒‒‒‒‒‒‒ ‒‒‒‒‒‒‒‒‒‒ ‒‒‒‒‒‒‒‒‒‒ ‒‒‒‒‒‒‒‒‒‒ ‒‒‒‒‒‒‒‒‒‒ ‒‒‒‒‒‒‒‒‒‒ ‒‒‒‒‒‒‒‒‒‒ ‒‒‒‒‒‒‒‒‒‒ ‒‒‒‒‒‒‒‒‒‒ ‒‒‒‒‒‒‒‒‒‒ ‒‒‒‒‒‒‒‒‒‒ ‒‒‒‒‒‒‒‒‒‒ ‒‒‒‒‒‒‒‒‒‒ ‒‒‒‒‒‒‒‒‒‒ ‒‒‒‒‒‒‒‒‒‒ ‒‒‒‒‒‒‒‒‒‒ ‒‒‒‒‒‒‒‒‒‒ ‒‒‒‒‒‒‒‒‒‒ ‒‒‒‒‒‒‒‒‒‒ ‒‒‒‒‒‒‒‒‒‒ ‒‒‒‒‒‒‒‒‒‒ ‒‒‒‒‒‒‒‒‒‒ ‒‒‒‒‒‒‒‒‒‒ ‒‒‒‒‒‒‒‒‒‒ ‒‒‒‒‒‒‒‒‒‒ ‒‒‒‒‒‒‒‒‒‒ ‒‒‒‒‒‒‒‒‒‒ ‒‒‒‒‒‒‒‒‒‒ ‒‒‒‒‒‒‒‒‒‒ ‒‒‒‒‒‒‒‒‒‒ ‒‒‒‒‒‒‒‒‒‒ ‒‒‒‒‒‒‒‒‒‒ ‒‒‒‒‒‒‒‒‒‒ ‒‒‒‒‒‒‒‒‒‒ ‒‒‒‒‒‒‒‒‒‒ ‒‒‒‒‒‒‒‒‒‒ ‒‒‒‒‒‒‒‒‒‒ ‒‒‒‒‒‒‒‒‒‒ ‒‒‒‒‒‒‒‒‒‒ ‒‒‒‒‒‒‒‒‒‒ ‒‒‒‒‒‒‒‒‒‒ ‒‒‒‒‒‒‒‒‒‒ ‒‒‒‒‒‒‒‒‒‒ ‒‒‒‒‒‒‒‒‒‒ ‒‒‒‒‒‒‒‒‒‒ ‒‒‒‒‒‒‒‒‒‒ ‒‒‒‒‒‒‒‒‒‒ ‒‒‒‒‒‒‒‒‒‒ ‒‒‒‒‒‒‒‒‒‒ ‒‒‒‒‒‒‒‒‒‒ ‒‒‒‒‒‒‒‒‒‒ ‒‒‒‒‒‒‒‒‒‒ ‒‒‒‒‒‒‒‒‒‒ ‒‒‒‒‒‒‒‒‒‒ ‒‒‒‒‒‒‒‒‒‒ ‒‒‒‒‒‒‒‒‒‒ ‒‒‒‒‒‒‒‒‒‒ ‒‒‒‒‒‒‒‒‒‒ ‒‒‒‒‒‒‒‒‒‒ ‒‒‒‒‒‒‒‒‒‒ ‒‒‒‒‒‒‒‒‒‒ ‒‒‒‒‒‒‒‒‒‒ ‒‒‒‒‒‒‒‒‒‒ ‒‒‒‒‒‒‒‒‒‒ ‒‒‒‒‒‒‒‒‒‒ ‒‒‒‒‒‒‒‒‒‒ ‒‒‒‒‒‒‒‒‒‒ ‒‒‒‒‒‒‒‒‒‒ ‒‒‒‒‒‒‒‒‒‒ ‒‒‒‒‒‒‒‒‒‒ ‒‒‒‒‒‒‒‒‒‒ ‒‒‒‒‒‒‒‒‒‒ ‒‒‒‒‒‒‒‒‒‒ ‒‒‒‒‒‒‒‒‒‒ ‒‒‒‒‒‒‒‒‒‒ ‒‒‒‒‒‒‒‒‒‒ ‒‒‒‒‒‒‒‒‒‒ ‒‒‒‒‒‒‒‒‒‒ ‒‒‒‒‒‒‒‒‒‒ ‒‒‒‒‒‒‒‒‒‒ ‒‒‒‒‒‒‒‒‒‒ ‒‒‒‒‒‒‒‒‒‒ ‒‒‒‒‒‒‒‒‒‒ ‒‒‒‒‒‒‒‒‒‒ ‒‒‒‒‒‒‒‒‒‒ ‒‒‒‒‒‒‒‒‒‒ ‒‒‒‒‒‒‒‒‒‒ ‒‒‒‒‒‒‒‒‒‒ ‒‒‒‒‒‒‒‒‒‒ ‒‒‒‒‒‒‒‒‒‒ ‒‒‒‒‒‒‒‒‒‒ ‒‒‒‒‒‒‒‒‒‒ ‒‒‒‒‒‒‒‒‒‒ ‒‒‒‒‒‒‒‒‒‒ ‒‒‒‒‒‒‒‒‒‒ ‒‒‒‒‒‒‒‒‒‒ ‒‒‒‒‒‒‒‒‒‒ ‒‒‒‒‒‒‒‒‒‒ ‒‒‒‒‒‒‒‒‒‒ ‒‒‒‒‒‒‒‒‒‒ ‒‒‒‒‒‒‒‒‒‒ ‒‒‒‒‒‒‒‒‒‒ ‒‒‒‒‒‒‒‒‒‒ ‒‒‒‒‒‒‒‒‒‒ ‒‒‒‒‒‒‒‒‒‒ ‒‒‒‒‒‒‒‒‒‒ ‒‒‒‒‒‒‒‒‒‒ ‒‒‒‒‒‒‒‒‒‒ ‒‒‒‒‒‒‒‒‒‒ ‒‒‒‒‒‒‒‒‒‒ ‒‒‒‒‒‒‒‒‒‒ ‒‒‒‒‒‒‒‒‒‒ ‒‒‒‒‒‒‒‒‒‒ ‒‒‒‒‒‒‒‒‒‒ ‒‒‒‒‒‒‒‒‒‒ ‒‒‒‒‒‒‒‒‒‒ ‒‒‒‒‒‒‒‒‒‒ ‒‒‒‒‒‒‒‒‒‒ ‒‒‒‒‒‒‒‒‒‒ ‒‒‒‒‒‒‒‒‒‒ ‒‒‒‒‒‒‒‒‒‒ ‒‒‒‒‒‒‒‒‒‒ ‒‒‒‒‒‒‒‒‒‒ ‒‒‒‒‒‒‒‒‒‒ ‒‒‒‒‒‒‒‒‒‒ ‒‒‒‒‒‒‒‒‒‒ ‒‒‒‒‒‒‒‒‒‒ ‒‒‒‒‒‒‒‒‒‒ ‒‒‒‒‒‒‒‒‒‒ ‒‒‒‒‒‒‒‒‒‒ ‒‒‒‒‒‒‒‒‒‒ ‒‒‒‒‒‒‒‒‒‒ ‒‒‒‒‒‒‒‒‒‒ ‒‒‒‒‒‒‒‒‒‒ ‒‒‒‒‒‒‒‒‒‒ ‒‒‒‒‒‒‒‒‒‒ ‒‒‒‒‒‒‒‒‒‒ ‒‒‒‒‒‒‒‒‒‒ ‒‒‒‒‒‒‒‒‒‒ ‒‒‒‒‒‒‒‒‒‒ ‒‒‒‒‒‒‒‒‒‒ ‒‒‒‒‒‒‒‒‒‒ ‒‒‒‒‒‒‒‒‒‒ ‒‒‒‒‒‒‒‒‒‒ ‒‒‒‒‒‒‒‒‒‒ ‒‒‒‒‒‒‒‒‒‒ ‒‒‒‒‒‒‒‒‒‒ ‒‒‒‒‒‒‒‒‒‒ ‒‒‒‒‒‒‒‒‒‒ ‒‒‒‒‒‒‒‒‒‒ ‒‒‒‒‒‒‒‒‒‒ ‒‒‒‒‒‒‒‒‒‒ ‒‒‒‒‒‒‒‒‒‒ ‒‒‒‒‒‒‒‒‒‒ ‒‒‒‒‒‒‒‒‒‒ ‒‒‒‒‒‒‒‒‒‒ ‒‒‒‒‒‒‒‒‒‒ ‒‒‒‒‒‒‒‒‒‒ ‒‒‒‒‒‒‒‒‒‒ ‒‒‒‒‒‒‒‒‒‒ ‒‒‒‒‒‒‒‒‒‒ ‒‒‒‒‒‒‒‒‒‒ ‒‒‒‒‒‒‒‒‒‒ ‒‒‒‒‒‒‒‒‒‒ ‒‒‒‒‒‒‒‒‒‒ ‒‒‒‒‒‒‒‒‒‒ ‒‒‒‒‒‒‒‒‒‒ ‒‒‒‒‒‒‒‒‒‒ ‒‒‒‒‒‒‒‒‒‒ ‒‒‒‒‒‒‒‒‒‒ ‒‒‒‒‒‒‒‒‒‒ ‒‒‒‒‒‒‒‒‒‒ ‒‒‒‒‒‒‒‒‒‒ ‒‒‒‒‒‒‒‒‒‒ ‒‒‒‒‒‒‒‒‒‒ ‒‒‒‒‒‒‒‒‒‒ ‒‒‒‒‒‒‒‒‒‒ ‒‒‒‒‒‒‒‒‒‒ ‒‒‒‒‒‒‒‒‒‒ ‒‒‒‒‒‒‒‒‒‒ ‒‒‒‒‒‒‒‒‒‒ ‒‒‒‒‒‒‒‒‒‒ ‒‒‒‒‒‒‒‒‒‒ ‒‒‒‒‒‒‒‒‒‒ ‒‒‒‒‒‒‒‒‒‒ ‒‒‒‒‒‒‒‒‒‒ ‒‒‒‒‒‒‒‒‒‒ ‒‒‒‒‒‒‒‒‒‒ ‒‒‒‒‒‒‒‒‒‒ ‒‒‒‒‒‒‒‒‒‒ ‒‒‒‒‒‒‒‒‒‒ ‒‒‒‒‒‒‒‒‒‒ ‒‒‒‒‒‒‒‒‒‒ ‒‒‒‒‒‒‒‒‒‒ ‒‒‒‒‒‒‒‒‒‒ ‒‒‒‒‒‒‒‒‒‒ ‒‒‒‒‒‒‒‒‒‒ ‒‒‒‒‒‒‒‒‒‒ ‒‒‒‒‒‒‒‒‒‒ ‒‒‒‒‒‒‒‒‒‒ ‒‒‒‒‒‒‒‒‒‒ ‒‒‒‒‒‒‒‒‒‒ ‒‒‒‒‒‒‒‒‒‒ ‒‒‒‒‒‒‒‒‒‒ ‒‒‒‒‒‒‒‒‒‒ ‒‒‒‒‒‒‒‒‒‒ ‒‒‒‒‒‒‒‒‒‒ ‒‒‒‒‒‒‒‒‒‒ ‒‒‒‒‒‒‒‒‒‒ ‒‒‒‒‒‒‒‒‒‒ ‒‒‒‒‒‒‒‒‒‒ ‒‒‒‒‒‒‒‒‒‒ ‒‒‒‒‒‒‒‒‒‒ ‒‒‒‒‒‒‒‒
‒‒‒‒‒‒‒‒ ‒‒‒‒‒‒‒‒‒‒ ‒‒‒‒‒‒‒‒‒‒ ‒‒‒‒‒‒‒‒‒‒ ‒‒‒‒‒‒‒‒‒‒ ‒‒‒‒‒‒‒‒‒‒ ‒‒‒‒‒‒‒‒‒‒ ‒‒‒‒‒‒‒‒‒‒ ‒‒‒‒‒‒‒‒‒‒ ‒‒‒‒‒‒‒‒‒‒ ‒‒‒‒‒‒‒‒‒‒ ‒‒‒‒‒‒‒‒‒‒ ‒‒‒‒‒‒‒‒‒‒ ‒‒‒‒‒‒‒‒‒‒ ‒‒‒‒‒‒‒‒‒‒ ‒‒‒‒‒‒‒‒‒‒ ‒‒‒‒‒‒‒‒‒‒ ‒‒‒‒‒‒‒‒‒‒ ‒‒‒‒‒‒‒‒‒‒ ‒‒‒‒‒‒‒‒‒‒ ‒‒‒‒‒‒‒‒‒‒ ‒‒‒‒‒‒‒‒‒‒ ‒‒‒‒‒‒‒‒‒‒ ‒‒‒‒‒‒‒‒‒‒ ‒‒‒‒‒‒‒‒‒‒ ‒‒‒‒‒‒‒‒‒‒ ‒‒‒‒‒‒‒‒‒‒ ‒‒‒‒‒‒‒‒‒‒ ‒‒‒‒‒‒‒‒‒‒ ‒‒‒‒‒‒‒‒‒‒ ‒‒‒‒‒‒‒‒‒‒ ‒‒‒‒‒‒‒‒‒‒ ‒‒‒‒‒‒‒‒‒‒ ‒‒‒‒‒‒‒‒‒‒ ‒‒‒‒‒‒‒‒‒‒ ‒‒‒‒‒‒‒‒‒‒ ‒‒‒‒‒‒‒‒‒‒ ‒‒‒‒‒‒‒‒‒‒ ‒‒‒‒‒‒‒‒‒‒ ‒‒‒‒‒‒‒‒‒‒ ‒‒‒‒‒‒‒‒‒‒ ‒‒‒‒‒‒‒‒‒‒ ‒‒‒‒‒‒‒‒‒‒ ‒‒‒‒‒‒‒‒‒‒ ‒‒‒‒‒‒‒‒‒‒ ‒‒‒‒‒‒‒‒‒‒ ‒‒‒‒‒‒‒‒‒‒ ‒‒‒‒‒‒‒‒‒‒ ‒‒‒‒‒‒‒‒‒‒ ‒‒‒‒‒‒‒‒‒‒ ‒‒‒‒‒‒‒‒‒‒ ‒‒‒‒‒‒‒‒‒‒ ‒‒‒‒‒‒‒‒‒‒ ‒‒‒‒‒‒‒‒‒‒ ‒‒‒‒‒‒‒‒‒‒ ‒‒‒‒‒‒‒‒‒‒ ‒‒‒‒‒‒‒‒‒‒ ‒‒‒‒‒‒‒‒‒‒ ‒‒‒‒‒‒‒‒‒‒ ‒‒‒‒‒‒‒‒‒‒ ‒‒‒‒‒‒‒‒‒‒ ‒‒‒‒‒‒‒‒‒‒ ‒‒‒‒‒‒‒‒‒‒ ‒‒‒‒‒‒‒‒‒‒ ‒‒‒‒‒‒‒‒‒‒ ‒‒‒‒‒‒‒‒‒‒ ‒‒‒‒‒‒‒‒‒‒ ‒‒‒‒‒‒‒‒‒‒ ‒‒‒‒‒‒‒‒‒‒ ‒‒‒‒‒‒‒‒‒‒ ‒‒‒‒‒‒‒‒‒‒ ‒‒‒‒‒‒‒‒‒‒ ‒‒‒‒‒‒‒‒‒‒ ‒‒‒‒‒‒‒‒‒‒ ‒‒‒‒‒‒‒‒‒‒ ‒‒‒‒‒‒‒‒‒‒ ‒‒‒‒‒‒‒‒‒‒ ‒‒‒‒‒‒‒‒‒‒ ‒‒‒‒‒‒‒‒‒‒ ‒‒‒‒‒‒‒‒‒‒ ‒‒‒‒‒‒‒‒‒‒ ‒‒‒‒‒‒‒‒‒‒ ‒‒‒‒‒‒‒‒‒‒ ‒‒‒‒‒‒‒‒‒‒ ‒‒‒‒‒‒‒‒‒‒ ‒‒‒‒‒‒‒‒‒‒ ‒‒‒‒‒‒‒‒‒‒ ‒‒‒‒‒‒‒‒‒‒ ‒‒‒‒‒‒‒‒‒‒ ‒‒‒‒‒‒‒‒‒‒ ‒‒‒‒‒‒‒‒‒‒ ‒‒‒‒‒‒‒‒‒‒ ‒‒‒‒‒‒‒‒‒‒ ‒‒‒‒‒‒‒‒‒‒ ‒‒‒‒‒‒‒‒‒‒ ‒‒‒‒‒‒‒‒‒‒ ‒‒‒‒‒‒‒‒‒‒ ‒‒‒‒‒‒‒‒‒‒ ‒‒‒‒‒‒‒‒‒‒ ‒‒‒‒‒‒‒‒‒‒ ‒‒‒‒‒‒‒‒‒‒ ‒‒‒‒‒‒‒‒‒‒ ‒‒‒‒‒‒‒‒‒‒ ‒‒‒‒‒‒‒‒‒‒ ‒‒‒‒‒‒‒‒‒‒ ‒‒‒‒‒‒‒‒‒‒ ‒‒‒‒‒‒‒‒‒‒ ‒‒‒‒‒‒‒‒‒‒ ‒‒‒‒‒‒‒‒‒‒ ‒‒‒‒‒‒‒‒‒‒ ‒‒‒‒‒‒‒‒‒‒ ‒‒‒‒‒‒‒‒‒‒ ‒‒‒‒‒‒‒‒‒‒ ‒‒‒‒‒‒‒‒‒‒ ‒‒‒‒‒‒‒‒‒‒ ‒‒‒‒‒‒‒‒‒‒ ‒‒‒‒‒‒‒‒‒‒ ‒‒‒‒‒‒‒‒‒‒ ‒‒‒‒‒‒‒‒‒‒ ‒‒‒‒‒‒‒‒‒‒ ‒‒‒‒‒‒‒‒‒‒ ‒‒‒‒‒‒‒‒‒‒ ‒‒‒‒‒‒‒‒‒‒ ‒‒‒‒‒‒‒‒‒‒ ‒‒‒‒‒‒‒‒‒‒ ‒‒‒‒‒‒‒‒‒‒ ‒‒‒‒‒‒‒‒‒‒ ‒‒‒‒‒‒‒‒‒‒ ‒‒‒‒‒‒‒‒‒‒ ‒‒‒‒‒‒‒‒‒‒ ‒‒‒‒‒‒‒‒‒‒ ‒‒‒‒‒‒‒‒‒‒ ‒‒‒‒‒‒‒‒‒‒ ‒‒‒‒‒‒‒‒‒‒ ‒‒‒‒‒‒‒‒‒‒ ‒‒‒‒‒‒‒‒‒‒ ‒‒‒‒‒‒‒‒‒‒ ‒‒‒‒‒‒‒‒‒‒ ‒‒‒‒‒‒‒‒‒‒ ‒‒‒‒‒‒‒‒‒‒ ‒‒‒‒‒‒‒‒‒‒ ‒‒‒‒‒‒‒‒‒‒ ‒‒‒‒‒‒‒‒‒‒ ‒‒‒‒‒‒‒‒‒‒ ‒‒‒‒‒‒‒‒‒‒ ‒‒‒‒‒‒‒‒‒‒ ‒‒‒‒‒‒‒‒‒‒ ‒‒‒‒‒‒‒‒‒‒ ‒‒‒‒‒‒‒‒‒‒ ‒‒‒‒‒‒‒‒‒‒ ‒‒‒‒‒‒‒‒‒‒ ‒‒‒‒‒‒‒‒‒‒ ‒‒‒‒‒‒‒‒‒‒ ‒‒‒‒‒‒‒‒‒‒ ‒‒‒‒‒‒‒‒‒‒ ‒‒‒‒‒‒‒‒‒‒ ‒‒‒‒‒‒‒‒‒‒ ‒‒‒‒‒‒‒‒‒‒ ‒‒‒‒‒‒‒‒‒‒ ‒‒‒‒‒‒‒‒‒‒ ‒‒‒‒‒‒‒‒‒‒ ‒‒‒‒‒‒‒‒‒‒ ‒‒‒‒‒‒‒‒‒‒ ‒‒‒‒‒‒‒‒‒‒ ‒‒‒‒‒‒‒‒‒‒ ‒‒‒‒‒‒‒‒‒‒ ‒‒‒‒‒‒‒‒‒‒ ‒‒‒‒‒‒‒‒‒‒ ‒‒‒‒‒‒‒‒‒‒ ‒‒‒‒‒‒‒‒‒‒ ‒‒‒‒‒‒‒‒‒‒ ‒‒‒‒‒‒‒‒‒‒ ‒‒‒‒‒‒‒‒‒‒ ‒‒‒‒‒‒‒‒‒‒ ‒‒‒‒‒‒‒‒‒‒ ‒‒‒‒‒‒‒‒‒‒ ‒‒‒‒‒‒‒‒‒‒ ‒‒‒‒‒‒‒‒‒‒ ‒‒‒‒‒‒‒‒‒‒ ‒‒‒‒‒‒‒‒‒‒ ‒‒‒‒‒‒‒‒‒‒ ‒‒‒‒‒‒‒‒‒‒ ‒‒‒‒‒‒‒‒‒‒ ‒‒‒‒‒‒‒‒‒‒ ‒‒‒‒‒‒‒‒‒‒ ‒‒‒‒‒‒‒‒‒‒ ‒‒‒‒‒‒‒‒‒‒ ‒‒‒‒‒‒‒‒‒‒ ‒‒‒‒‒‒‒‒‒‒ ‒‒‒‒‒‒‒‒‒‒ ‒‒‒‒‒‒‒‒‒‒ ‒
‒‒‒‒‒‒ ‒‒‒‒‒‒‒‒‒‒ ‒‒‒‒‒‒‒‒‒‒ ‒‒‒‒‒‒‒‒‒‒ ‒‒‒‒‒‒‒‒‒‒ ‒‒‒‒‒‒‒‒‒‒ ‒‒‒‒‒‒‒‒‒‒ ‒‒‒‒‒‒‒‒‒‒ ‒‒‒‒‒‒‒‒‒‒ ‒‒‒‒‒‒‒‒‒‒ ‒‒‒‒‒‒‒‒‒‒ ‒‒‒‒‒‒‒‒‒‒ ‒‒‒‒‒‒‒‒‒‒ ‒‒‒‒‒‒‒‒‒‒ ‒‒‒‒‒‒‒‒‒‒ ‒‒‒‒‒‒‒‒‒‒ ‒‒‒‒‒‒‒‒‒‒ ‒‒‒‒‒‒‒‒‒‒ ‒‒‒‒‒‒‒‒‒‒ ‒‒‒‒‒‒‒‒‒‒ ‒‒‒‒‒‒‒‒‒‒ ‒‒‒‒‒‒‒‒‒‒ ‒‒‒‒‒‒‒‒‒‒ ‒‒‒‒‒‒‒‒‒‒ ‒‒‒‒‒‒‒‒‒‒ ‒‒‒‒‒‒‒‒‒‒ ‒‒‒‒‒‒‒‒‒‒ ‒‒‒‒‒‒‒‒‒‒ ‒‒‒‒‒‒‒‒‒‒ ‒‒‒‒‒‒‒‒‒‒ ‒‒‒‒‒‒‒‒‒‒ ‒‒‒‒‒‒‒‒‒‒ ‒‒‒‒‒‒‒‒‒‒ ‒‒‒‒‒‒‒‒‒‒ ‒‒‒‒‒‒‒‒‒‒ ‒‒‒‒‒‒‒‒‒‒ ‒‒‒‒‒‒‒‒‒‒ ‒‒‒‒‒‒‒‒‒‒ ‒‒‒‒‒‒‒‒‒‒ ‒‒‒‒‒‒‒‒‒‒ ‒‒‒‒‒‒‒‒‒‒ ‒‒‒‒‒‒‒‒‒‒ ‒‒‒‒‒‒‒‒‒‒ ‒‒‒‒‒‒‒‒‒‒ ‒‒‒‒‒‒‒‒‒‒ ‒‒‒‒‒‒‒‒‒‒ ‒‒‒‒‒‒‒‒‒‒ ‒‒‒‒‒‒‒‒‒‒ ‒‒‒‒‒‒‒‒‒‒ ‒‒‒‒‒‒‒‒‒‒ ‒‒‒‒‒‒‒‒‒‒ ‒‒‒‒‒‒‒‒‒‒ ‒‒‒‒‒‒‒‒‒‒ ‒‒‒‒‒‒‒‒‒‒ ‒‒‒‒‒‒‒‒‒‒ ‒‒‒‒‒‒‒‒‒‒ ‒‒‒‒‒‒‒‒‒‒ ‒‒‒‒‒‒‒‒‒‒ ‒‒‒‒‒‒‒‒‒‒ ‒‒‒‒‒‒‒‒‒‒ ‒‒‒‒‒‒‒‒‒‒ ‒‒‒‒‒‒‒‒‒‒ ‒‒‒‒‒‒‒‒‒‒ ‒‒‒‒‒‒‒‒‒‒ ‒‒‒‒‒‒‒‒‒‒ ‒‒‒‒‒‒‒‒‒‒ ‒‒‒‒‒‒‒‒‒‒ ‒‒‒‒‒‒‒‒‒‒ ‒‒‒‒‒‒‒‒‒‒ ‒‒‒‒‒‒‒‒‒‒ ‒‒‒‒‒‒‒‒‒‒ ‒‒‒‒‒‒‒‒‒‒ ‒‒‒‒‒‒‒‒‒‒ ‒‒‒‒‒‒‒‒‒‒ ‒‒‒‒‒‒‒‒‒‒ ‒‒‒‒‒‒‒‒‒‒ ‒‒‒‒‒‒‒‒‒‒ ‒‒‒‒‒‒‒‒‒‒ ‒‒‒‒‒‒‒‒‒‒ ‒‒‒‒‒‒‒‒‒‒ ‒‒‒‒‒‒‒‒‒‒ ‒‒‒‒‒‒‒‒‒‒ ‒‒‒‒‒‒‒‒‒‒ ‒‒‒‒‒‒‒‒‒‒ ‒‒‒‒‒‒‒‒‒‒ ‒‒‒‒‒‒‒‒‒‒ ‒‒‒‒‒‒‒‒‒‒ ‒‒‒‒‒‒‒‒‒‒ ‒‒‒‒‒‒‒‒‒‒ ‒‒‒‒‒‒‒‒‒‒ ‒‒‒‒‒‒‒‒‒‒ ‒‒‒‒‒‒‒‒‒‒ ‒‒‒‒‒‒‒‒‒‒ ‒‒‒‒‒‒‒‒‒‒ ‒‒‒‒‒‒‒‒‒‒ ‒‒‒‒‒‒‒‒‒‒ ‒‒‒‒‒‒‒‒‒‒ ‒‒‒‒‒‒‒‒‒‒ ‒‒‒‒‒‒‒‒‒‒ ‒‒‒‒‒‒‒‒‒‒ ‒‒‒‒‒‒‒‒‒‒ ‒‒‒‒‒‒‒‒‒‒ ‒‒‒‒‒‒‒‒‒‒ ‒‒‒‒‒‒‒‒‒‒ ‒‒‒‒‒‒‒‒‒‒ ‒‒‒‒‒‒‒‒‒‒ ‒‒‒‒‒‒‒‒‒‒ ‒‒‒‒‒‒‒‒‒‒ ‒‒‒‒‒‒‒‒‒‒ ‒‒‒‒‒‒‒‒‒‒ ‒‒‒‒‒‒‒‒‒‒ ‒‒‒‒‒‒‒‒‒‒ ‒‒‒‒‒‒‒‒‒‒ ‒‒‒‒‒‒‒‒‒‒ ‒‒‒‒‒‒‒‒‒‒ ‒‒‒‒‒‒‒‒‒‒ ‒‒‒‒‒‒‒‒‒‒ ‒‒‒‒‒‒‒‒‒‒ ‒‒‒‒‒‒‒‒‒‒ ‒‒‒‒‒‒‒‒‒‒ ‒‒‒‒‒‒‒‒‒‒ ‒‒‒‒‒‒‒‒‒‒ ‒‒‒‒‒‒‒‒‒‒ ‒‒‒‒‒‒‒‒‒‒ ‒‒‒‒‒‒‒‒‒‒ ‒‒‒‒‒‒‒‒‒‒ ‒‒‒‒‒‒‒‒‒‒ ‒‒‒‒‒‒‒‒‒‒ ‒‒‒‒‒‒‒‒‒‒ ‒‒‒‒‒‒‒‒‒‒ ‒‒‒‒‒‒‒‒‒‒ ‒‒‒‒‒‒‒‒‒‒ ‒‒‒‒‒‒‒‒‒‒ ‒‒‒‒‒‒‒‒‒‒ ‒‒‒‒‒‒‒‒‒‒ ‒‒‒‒‒‒‒‒‒‒ ‒‒‒‒‒‒‒‒‒‒ ‒‒‒‒‒‒‒‒‒‒ ‒‒‒‒‒‒‒‒‒‒ ‒‒‒‒‒‒‒‒‒‒ ‒‒‒‒‒‒‒‒‒‒ ‒‒‒‒‒‒‒‒‒‒ ‒‒‒‒‒‒‒‒‒‒ ‒‒‒‒‒‒‒‒‒‒ ‒‒‒‒‒‒‒‒‒‒ ‒‒‒‒‒‒‒‒‒‒ ‒‒‒‒‒‒‒‒‒‒ ‒‒‒‒‒‒‒‒‒‒ ‒‒‒‒‒‒‒‒‒‒ ‒‒‒‒‒‒‒‒‒‒ ‒‒‒‒‒‒‒‒‒‒ ‒‒‒‒‒‒‒‒‒‒ ‒‒‒‒‒‒‒‒‒‒ ‒‒‒‒‒‒‒‒‒‒ ‒‒‒‒‒‒‒‒‒‒ ‒‒‒‒‒‒‒‒‒‒ ‒‒‒‒‒‒‒‒‒‒ ‒‒‒‒‒‒‒‒‒‒ ‒‒‒‒‒‒‒‒‒‒ ‒‒‒‒‒‒‒‒‒‒ ‒‒‒‒‒‒‒‒‒‒ ‒‒‒‒‒‒‒‒‒‒ ‒‒‒‒‒‒‒‒‒‒ ‒‒‒‒‒‒‒‒‒‒ ‒‒‒‒‒‒‒‒‒‒ ‒‒‒‒‒‒‒‒‒‒ ‒‒‒‒‒‒‒‒‒‒ ‒‒‒‒‒‒‒‒‒‒ ‒‒‒‒‒‒‒‒‒‒ ‒‒‒‒‒‒‒‒‒‒ ‒‒‒‒‒‒‒‒‒‒ ‒‒‒‒‒‒‒‒‒‒ ‒‒‒‒‒‒‒‒‒‒ ‒‒‒‒‒‒‒‒‒‒ ‒‒‒‒‒‒‒‒‒‒ ‒‒‒‒‒‒‒‒‒‒ ‒‒‒‒‒‒‒‒‒‒ ‒‒‒‒‒‒‒‒‒‒ ‒‒‒‒‒‒‒‒‒‒ ‒‒‒‒‒‒‒‒‒‒ ‒‒‒‒‒‒‒‒‒‒ ‒‒‒‒‒‒‒‒‒‒ ‒‒‒‒‒‒‒‒‒‒ ‒‒‒‒‒‒‒‒‒‒ ‒‒‒‒‒‒‒‒‒‒ ‒‒‒‒‒‒‒‒‒‒ ‒‒‒‒‒‒‒‒‒‒ ‒‒‒‒‒‒‒‒‒‒ ‒‒‒‒‒‒‒‒‒‒ ‒‒‒‒‒‒‒‒‒‒ ‒‒‒‒‒‒‒‒‒‒ ‒‒‒‒‒‒‒‒‒‒ ‒‒‒‒‒‒‒‒‒‒ ‒‒‒‒‒‒‒‒‒‒ ‒‒‒‒‒‒‒‒‒‒ ‒‒‒‒‒‒‒‒‒‒ ‒‒‒‒‒‒‒‒‒‒ ‒‒‒‒‒‒‒‒‒‒ ‒‒‒‒‒‒‒‒‒‒ ‒‒‒‒‒‒‒‒‒‒ ‒‒‒‒‒‒‒‒‒‒ ‒‒‒‒‒‒‒‒‒‒ ‒‒‒‒‒‒‒‒‒‒ ‒‒‒‒‒‒‒‒‒‒ ‒‒‒‒‒‒‒‒‒‒ ‒‒‒‒‒‒‒‒‒‒ ‒‒‒‒‒‒‒‒‒‒ ‒‒‒‒‒‒‒‒‒‒ ‒‒‒‒‒‒‒‒‒‒ ‒‒‒‒‒‒‒‒‒‒ ‒‒‒‒‒‒‒‒‒‒ ‒‒‒‒‒‒‒‒‒‒ ‒‒‒‒‒‒‒‒‒‒ ‒‒‒‒‒‒‒‒‒‒ ‒‒‒‒‒‒‒‒‒‒ ‒‒‒‒‒‒‒‒‒‒ ‒‒‒‒‒‒‒‒‒‒ ‒‒‒‒‒‒‒‒‒‒ ‒‒‒‒‒‒‒‒‒‒ ‒‒‒‒‒‒‒‒‒‒ ‒‒‒‒‒‒‒‒‒‒ ‒‒‒‒‒‒‒‒‒‒ ‒‒‒‒‒‒‒‒‒‒ ‒‒‒‒‒‒‒‒‒‒ ‒‒‒‒‒‒‒‒‒‒ ‒‒‒‒‒‒‒‒‒‒ ‒‒‒‒‒‒‒‒‒‒ ‒‒‒‒‒‒‒‒‒‒ ‒‒‒‒‒‒‒‒‒‒ ‒‒‒‒‒‒‒‒‒‒ ‒‒‒‒‒‒‒‒‒‒ ‒‒‒‒‒‒‒‒‒‒ ‒‒‒‒‒‒‒‒‒‒ ‒‒‒‒‒‒‒‒‒‒ ‒‒‒‒‒‒‒‒‒‒ ‒‒‒‒‒‒‒‒‒‒ ‒‒‒‒‒‒‒‒‒‒ ‒‒‒‒‒‒‒‒‒‒ ‒‒‒‒‒‒‒‒‒‒ ‒‒‒‒‒‒‒‒‒‒ ‒‒‒‒‒‒‒‒‒‒ ‒‒‒‒‒‒‒‒‒‒ ‒‒‒‒‒‒‒‒‒‒ ‒‒‒‒‒‒‒‒‒‒ ‒‒‒‒‒‒‒‒‒‒ ‒‒‒‒‒‒‒‒‒
‒‒‒‒ ‒‒‒‒‒‒‒‒‒‒ ‒‒‒‒‒‒‒‒‒‒ ‒‒‒‒‒‒‒‒‒‒ ‒‒‒‒‒‒‒‒‒‒ ‒‒‒‒‒‒‒‒‒‒ ‒‒‒‒‒‒‒‒‒‒ ‒‒‒‒‒‒‒‒‒‒ ‒‒‒‒‒‒‒‒‒‒ ‒‒‒‒‒‒‒‒‒‒ ‒‒‒‒‒‒‒‒‒‒ ‒‒‒‒‒‒‒‒‒‒ ‒‒‒‒‒‒‒‒‒‒ ‒‒‒‒‒‒‒‒‒‒ ‒‒‒‒‒‒‒‒‒‒ ‒‒‒‒‒‒‒‒‒‒ ‒‒‒‒‒‒‒‒‒‒ ‒‒‒‒‒‒‒‒‒‒ ‒‒‒‒‒‒‒‒‒‒ ‒‒‒‒‒‒‒‒‒‒ ‒‒‒‒‒‒‒‒‒‒ ‒‒‒‒‒‒‒‒‒‒ ‒‒‒‒‒‒‒‒‒‒ ‒‒‒‒‒‒‒‒‒‒ ‒‒‒‒‒‒‒‒‒‒ ‒‒‒‒‒‒‒‒‒‒ ‒‒‒‒‒‒‒‒‒‒ ‒‒‒‒‒‒‒‒‒‒ ‒‒‒‒‒‒‒‒‒‒ ‒‒‒‒‒‒‒‒‒‒ ‒‒‒‒‒‒‒‒‒‒ ‒‒‒‒‒‒‒‒‒‒ ‒‒‒‒‒‒‒‒‒‒ ‒‒‒‒‒‒‒‒‒‒ ‒‒‒‒‒‒‒‒‒‒ ‒‒‒‒‒‒‒‒‒‒ ‒‒‒‒‒‒‒‒‒‒ ‒‒‒‒‒‒‒‒‒‒ ‒‒‒‒‒‒‒‒‒‒ ‒‒‒‒‒‒‒‒‒‒ ‒‒‒‒‒‒‒‒‒‒ ‒‒‒‒‒‒‒‒‒‒ ‒‒‒‒‒‒‒‒‒‒ ‒‒‒‒‒‒‒‒‒‒ ‒‒‒‒‒‒‒‒‒‒ ‒‒‒‒‒‒‒‒‒‒ ‒‒‒‒‒‒‒‒‒‒ ‒‒‒‒‒‒‒‒‒‒ ‒‒‒‒‒‒‒‒‒‒ ‒‒‒‒‒‒‒‒‒‒ ‒‒‒‒‒‒‒‒‒‒ ‒‒‒‒‒‒‒‒‒‒ ‒‒‒‒‒‒‒‒‒‒ ‒‒‒‒‒‒‒‒‒‒ ‒‒‒‒‒‒‒‒‒‒ ‒‒‒‒‒‒‒‒‒‒ ‒‒‒‒‒‒‒‒‒‒ ‒‒‒‒‒‒‒‒‒‒ ‒‒‒‒‒‒‒‒‒‒ ‒‒‒‒‒‒‒‒‒‒ ‒‒‒‒‒‒‒‒‒‒ ‒‒‒‒‒‒‒‒‒‒ ‒‒‒‒‒‒‒‒‒‒ ‒‒‒‒‒‒‒‒‒‒ ‒‒‒‒‒‒‒‒‒‒ ‒‒‒‒‒‒‒‒‒‒ ‒‒‒‒‒‒‒‒‒‒ ‒‒‒‒‒‒‒‒‒‒ ‒‒‒‒‒‒‒‒‒‒ ‒‒‒‒‒‒‒‒‒‒ ‒‒‒‒‒‒‒‒‒‒ ‒‒‒‒‒‒‒‒‒‒ ‒‒‒‒‒‒‒‒‒‒ ‒‒‒‒‒‒‒‒‒‒ ‒‒‒‒‒‒‒‒‒‒ ‒‒‒‒‒‒‒‒‒‒ ‒‒‒‒‒‒‒‒‒‒ ‒‒‒‒‒‒‒‒‒‒ ‒‒‒‒‒‒‒‒‒‒ ‒‒‒‒‒‒‒‒‒‒ ‒‒‒‒‒‒‒‒‒‒ ‒‒‒‒‒‒‒‒‒‒ ‒‒‒‒‒‒‒‒‒‒ ‒‒‒‒‒‒‒‒‒‒ ‒‒‒‒‒‒‒‒‒‒ ‒‒‒‒‒‒‒‒‒‒ ‒‒‒‒‒‒‒‒‒‒ ‒‒‒‒‒‒‒‒‒‒ ‒‒‒‒‒‒‒‒‒‒ ‒‒‒‒‒‒‒‒‒‒ ‒‒‒‒‒‒‒‒‒‒ ‒‒‒‒‒‒‒‒‒‒ ‒‒‒‒‒‒‒‒‒‒ ‒‒‒‒‒‒‒‒‒‒ ‒‒‒‒‒‒‒‒‒‒ ‒‒‒‒‒‒‒‒‒‒ ‒‒‒‒‒‒‒‒‒‒ ‒‒‒‒‒‒‒‒‒‒ ‒‒‒‒‒‒‒‒‒‒ ‒‒‒‒‒‒‒‒‒‒ ‒‒‒‒‒‒‒‒‒‒ ‒‒‒‒‒‒‒‒‒‒ ‒‒‒‒‒‒‒‒‒‒ ‒‒‒‒‒‒‒‒‒‒ ‒‒‒‒‒‒‒‒‒‒ ‒‒‒‒‒‒‒‒‒‒ ‒‒‒‒‒‒‒‒‒‒ ‒‒‒‒‒‒‒‒‒‒ ‒‒‒‒‒‒‒‒‒‒ ‒‒‒‒‒‒‒‒‒‒ ‒‒‒‒‒‒‒‒‒‒ ‒‒‒‒‒‒‒‒‒‒ ‒‒‒‒‒‒‒‒‒‒ ‒‒‒‒‒‒‒‒‒‒ ‒‒‒‒‒‒‒‒‒‒ ‒‒‒‒‒‒‒‒‒‒ ‒‒‒‒‒‒‒‒‒‒ ‒‒‒‒‒‒‒‒‒‒ ‒‒‒‒‒‒‒‒‒‒ ‒‒‒‒‒‒‒‒‒‒ ‒‒‒‒‒‒‒‒‒‒ ‒‒‒‒‒‒‒‒‒‒ ‒‒‒‒‒‒‒‒‒‒ ‒‒‒‒‒‒‒‒‒‒ ‒‒‒‒‒‒‒‒‒‒ ‒‒‒‒‒‒‒‒‒‒ ‒‒‒‒‒‒‒‒‒‒ ‒‒‒‒‒‒‒‒‒‒ ‒‒‒‒‒‒‒‒‒‒ ‒‒‒‒‒‒‒‒‒‒ ‒‒‒‒‒‒‒‒‒‒ ‒‒‒‒‒‒‒‒‒‒ ‒‒‒‒‒‒‒‒‒‒ ‒‒‒‒‒‒‒‒‒‒ ‒‒‒‒‒‒‒‒‒‒ ‒‒‒‒‒‒‒‒‒‒ ‒‒‒‒‒‒‒‒‒‒ ‒‒‒‒‒‒‒‒‒‒ ‒‒‒‒‒‒‒‒‒‒ ‒‒‒‒‒‒‒‒‒‒ ‒‒‒‒‒‒‒‒‒‒ ‒‒‒‒‒‒‒‒‒‒ ‒‒‒‒‒‒‒‒‒‒ ‒‒‒‒‒‒‒‒‒‒ ‒‒‒‒‒‒‒‒‒‒ ‒‒‒‒‒‒‒‒‒‒ ‒‒‒‒‒‒‒‒‒‒ ‒‒‒‒‒‒‒‒‒‒ ‒‒‒‒‒‒‒‒‒‒ ‒‒‒‒‒‒‒‒‒‒ ‒‒‒‒‒‒‒‒‒‒ ‒‒‒‒‒‒‒‒‒‒ ‒‒‒‒‒‒‒‒‒‒ ‒‒‒‒‒‒‒‒‒‒ ‒‒‒‒‒‒‒‒‒‒ ‒‒‒‒‒‒‒‒‒‒ ‒‒‒‒‒‒‒‒‒‒ ‒‒‒‒‒‒‒‒‒‒ ‒‒‒‒‒‒‒‒‒‒ ‒‒‒‒‒‒‒‒‒‒ ‒‒‒‒‒‒‒‒‒‒ ‒‒‒‒‒‒‒‒‒‒ ‒‒‒‒‒‒‒‒‒‒ ‒‒‒‒‒‒‒‒‒‒ ‒‒‒‒‒‒‒‒‒‒ ‒‒‒‒‒‒‒‒‒‒ ‒‒‒‒‒‒‒‒‒‒ ‒‒‒‒‒‒‒‒‒‒ ‒‒‒‒‒‒‒‒‒‒ ‒‒‒‒‒‒‒‒‒‒ ‒‒‒‒‒‒‒‒‒‒ ‒‒‒‒‒‒‒‒‒‒ ‒‒‒‒‒‒‒‒‒‒ ‒‒‒‒‒‒‒‒‒‒ ‒‒‒‒‒‒‒‒‒‒ ‒‒‒‒‒‒‒‒‒‒ ‒‒‒‒‒‒‒‒‒‒ ‒‒‒‒‒‒‒‒‒‒ ‒‒‒‒‒‒‒‒‒‒ ‒‒‒‒‒‒‒‒‒‒ ‒‒‒‒‒‒‒‒‒‒ ‒‒‒‒‒‒‒‒‒‒ ‒‒‒‒‒‒‒‒‒‒ ‒‒‒‒‒‒‒‒‒‒ ‒‒‒‒‒‒‒‒‒‒ ‒‒‒‒‒‒‒‒‒‒ ‒‒‒‒‒‒‒‒‒‒ ‒‒‒‒‒‒‒‒‒‒ ‒‒‒‒‒‒‒‒‒‒ ‒‒‒‒‒‒‒‒‒‒ ‒‒‒‒‒‒‒‒‒‒ ‒‒‒‒‒‒‒‒‒‒ ‒‒‒‒‒‒‒‒‒‒ ‒‒‒‒‒‒‒‒‒‒ ‒‒‒‒‒‒‒‒‒‒ ‒‒‒‒‒‒‒‒‒‒ ‒‒‒‒‒‒‒‒‒‒ ‒‒‒‒‒‒‒‒‒‒ ‒‒‒‒‒‒‒‒‒‒ ‒‒‒‒‒‒‒‒‒‒ ‒‒‒‒‒‒‒‒‒‒ ‒‒‒‒‒‒‒‒‒‒ ‒‒‒‒‒‒‒‒‒‒ ‒‒‒‒‒‒‒‒‒‒ ‒‒‒‒‒‒‒‒‒‒ ‒‒‒‒‒‒‒‒‒‒ ‒‒‒‒‒‒‒‒‒‒ ‒‒‒‒‒‒‒‒‒‒ ‒‒‒‒‒‒‒‒‒‒ ‒‒‒‒‒‒‒
LETTRE DE L'INDO-CHINE
‒‒ ‒‒‒‒‒‒‒‒‒‒ ‒‒‒‒‒‒‒‒‒‒ ‒‒‒‒‒‒‒‒‒‒ ‒‒‒‒‒‒‒‒‒‒ ‒‒‒‒‒‒‒‒‒‒ ‒‒‒‒‒‒‒‒‒‒ ‒‒‒‒‒‒‒‒‒‒ ‒‒‒‒‒‒‒‒‒‒ ‒‒‒‒‒‒‒‒‒‒ ‒‒‒‒‒‒‒‒‒‒ ‒‒‒‒‒‒‒‒‒‒ ‒‒‒‒‒‒‒‒‒‒ ‒‒‒‒‒‒‒‒‒‒ ‒‒‒‒‒‒‒‒‒‒ ‒‒‒‒‒‒‒‒‒‒ ‒‒‒‒‒‒‒‒‒‒ ‒‒‒‒‒‒‒‒‒‒ ‒‒‒‒‒‒‒‒‒‒ ‒‒‒‒‒‒‒‒‒‒ ‒‒‒‒‒‒‒‒‒‒ ‒‒‒‒‒‒‒‒‒‒ ‒‒‒‒‒‒‒‒‒‒ ‒‒‒‒‒‒‒‒‒‒ ‒‒‒‒‒‒‒‒‒‒ ‒‒‒‒‒‒‒‒‒‒ ‒‒‒‒‒‒‒‒‒‒ ‒‒‒‒‒‒‒‒‒‒ ‒‒‒‒‒‒‒‒‒‒ ‒‒‒‒‒‒‒‒‒‒ ‒‒‒‒‒‒‒‒‒‒ ‒‒‒‒‒‒‒‒‒‒ ‒‒‒‒‒‒‒‒‒‒ ‒‒‒‒‒‒‒‒‒‒ ‒‒‒‒‒‒‒‒‒‒ ‒‒‒‒‒‒‒‒‒‒ ‒‒‒‒‒‒‒‒‒‒ ‒‒‒‒‒‒‒‒‒‒ ‒‒‒‒‒‒‒‒‒‒ ‒‒‒‒‒‒‒‒‒‒ ‒‒‒‒‒‒‒‒‒‒ ‒‒‒‒‒‒‒‒‒‒ ‒‒‒‒‒‒‒‒‒‒ ‒‒‒‒‒‒‒‒‒‒ ‒‒‒‒‒‒‒‒‒‒ ‒‒‒‒‒‒‒‒‒‒ ‒‒‒‒‒‒‒‒‒‒ ‒‒‒‒‒‒‒‒‒‒ ‒‒‒‒‒‒‒‒‒‒ ‒‒‒‒‒‒‒‒‒‒ ‒‒‒‒‒‒‒‒‒‒ ‒‒‒‒‒‒‒‒‒‒ ‒‒‒‒‒‒‒‒‒‒ ‒‒‒‒‒‒‒‒‒‒ ‒‒‒‒‒‒‒‒‒‒ ‒‒‒‒‒‒‒‒‒‒ ‒‒‒‒‒‒‒‒‒‒ ‒‒‒‒‒‒‒‒‒‒ ‒‒‒‒‒‒‒‒‒‒ ‒‒‒‒‒‒‒‒‒‒ ‒‒‒‒‒‒‒‒‒‒ ‒‒‒‒‒‒‒‒‒‒ ‒‒‒‒‒‒‒‒‒‒ ‒‒‒‒‒‒‒‒‒‒ ‒‒‒‒‒‒‒‒‒‒ ‒‒‒‒‒‒‒‒‒‒ ‒‒‒‒‒‒‒‒‒‒ ‒‒‒‒‒‒‒‒‒‒ ‒‒‒‒‒‒‒‒‒‒ ‒‒‒‒‒‒‒‒‒‒ ‒‒‒‒‒‒‒‒‒‒ ‒‒‒‒‒‒‒‒‒‒ ‒‒‒‒‒‒‒‒‒‒ ‒‒‒‒‒‒‒‒‒‒ ‒‒‒‒‒‒‒‒‒‒ ‒‒‒‒‒‒‒‒‒‒ ‒‒‒‒‒‒‒‒‒‒ ‒‒‒‒‒‒‒‒‒‒ ‒‒‒‒‒‒‒‒‒‒ ‒‒‒‒‒‒‒‒‒‒ ‒‒‒‒‒‒‒‒‒‒ ‒‒‒‒‒‒‒‒‒‒ ‒‒‒‒‒‒‒‒‒‒ ‒‒‒‒‒‒‒‒‒‒ ‒‒‒‒‒‒‒‒‒‒ ‒‒‒‒‒‒‒‒‒‒ ‒‒‒‒‒‒‒‒‒‒ ‒‒‒‒‒‒‒‒‒‒ ‒‒‒‒‒‒‒‒‒‒ ‒‒‒‒‒‒‒‒‒‒ ‒‒‒‒‒‒‒‒‒‒ ‒‒‒‒‒‒‒‒‒‒ ‒‒‒‒‒‒‒‒‒‒ ‒‒‒‒‒‒‒‒‒‒ ‒‒‒‒‒‒‒‒‒‒ ‒‒‒‒‒‒‒‒‒‒ ‒‒‒‒‒‒‒‒‒‒ ‒‒‒‒‒‒‒‒‒‒ ‒‒‒‒‒‒‒‒‒‒ ‒‒‒‒‒‒‒‒‒‒ ‒‒‒‒‒‒‒‒‒‒ ‒‒‒‒‒‒‒‒‒‒ ‒‒‒‒‒‒‒‒‒‒ ‒‒‒‒‒‒‒‒‒‒ ‒‒‒‒‒‒‒‒‒‒ ‒‒‒‒‒‒‒‒‒‒ ‒‒‒‒‒‒‒‒‒‒ ‒‒‒‒‒‒‒‒‒‒ ‒‒‒‒‒‒‒‒‒‒ ‒‒‒‒‒‒‒‒‒‒ ‒‒‒‒‒‒‒‒‒‒ ‒‒‒‒‒‒‒‒‒‒ ‒‒‒‒‒‒‒‒‒‒ ‒‒‒‒‒‒‒‒‒‒ ‒‒‒‒‒‒‒‒‒‒ ‒‒‒‒‒‒‒‒‒‒ ‒‒‒‒‒‒‒‒‒‒ ‒‒‒‒‒‒‒‒‒‒ ‒‒‒‒‒‒‒‒‒‒ ‒‒‒‒‒‒‒‒‒‒ ‒‒‒‒‒‒‒‒‒‒ ‒‒‒‒‒‒‒‒‒‒ ‒‒‒‒‒‒‒‒‒‒ ‒‒‒‒‒‒‒‒‒‒ ‒‒‒‒‒‒‒‒‒‒ ‒‒‒‒‒‒‒‒‒‒ ‒‒‒‒‒‒‒‒‒‒ ‒‒‒‒‒‒‒‒‒‒ ‒‒‒‒‒‒‒‒‒‒ ‒‒‒‒‒‒‒‒‒‒ ‒‒‒‒‒‒‒‒‒‒ ‒‒‒‒‒‒‒‒‒‒ ‒‒‒‒‒‒‒‒‒‒ ‒‒‒‒‒‒‒‒‒‒ ‒‒‒‒‒‒‒‒‒‒ ‒‒‒‒‒‒‒‒‒‒ ‒‒‒‒‒‒‒‒‒‒ ‒‒‒‒‒‒‒‒‒‒ ‒‒‒‒‒‒‒‒‒‒ ‒‒‒‒‒‒‒‒‒‒ ‒‒‒‒‒‒‒‒‒‒ ‒‒‒‒‒‒‒‒‒‒ ‒‒‒‒‒‒‒‒‒‒ ‒‒‒‒‒‒‒‒‒‒ ‒‒‒‒‒‒‒‒‒‒ ‒‒‒‒‒‒‒‒‒‒ ‒‒‒‒‒‒‒‒‒‒ ‒‒‒‒‒‒‒‒‒‒ ‒‒‒‒‒‒‒‒‒‒ ‒‒‒‒‒‒‒‒‒‒ ‒‒‒‒‒‒‒‒‒‒ ‒‒‒‒‒‒‒‒‒‒ ‒‒‒‒‒‒‒‒‒‒ ‒‒‒‒‒‒‒‒‒‒ ‒‒‒‒‒‒‒‒‒‒ ‒‒‒‒‒‒‒‒‒‒ ‒‒‒‒‒‒‒‒‒‒ ‒‒‒‒‒‒‒‒‒‒ ‒‒‒‒‒‒‒‒‒‒ ‒‒‒‒‒‒‒‒‒‒ ‒‒‒‒‒‒‒‒‒‒ ‒‒‒‒‒‒‒‒‒‒ ‒‒‒‒‒‒‒‒‒‒ ‒‒‒‒‒‒‒‒‒‒ ‒‒‒‒‒‒‒‒‒‒ ‒‒‒‒‒‒‒‒‒‒ ‒‒‒‒‒‒‒‒‒‒ ‒‒‒‒‒‒‒‒‒‒ ‒‒‒‒‒‒‒‒‒‒ ‒‒‒‒‒‒‒‒‒‒ ‒‒‒‒‒‒‒‒‒‒ ‒‒‒‒‒‒‒‒‒‒ ‒‒‒‒‒‒‒‒‒‒ ‒‒‒‒‒‒‒‒‒‒ ‒‒‒‒‒‒‒‒‒‒ ‒‒‒‒‒‒‒‒‒‒ ‒‒‒‒‒‒‒‒‒‒ ‒‒‒‒‒‒‒‒‒‒ ‒‒‒‒‒‒‒‒‒‒ ‒‒‒‒‒‒‒‒‒‒ ‒‒‒‒‒‒‒‒‒‒ ‒‒‒‒‒‒‒‒‒‒ ‒‒‒‒‒‒‒‒‒‒ ‒‒‒‒‒‒‒‒‒‒ ‒‒‒‒‒‒‒‒‒‒ ‒‒‒‒‒‒‒‒‒‒ ‒‒‒‒‒‒‒‒‒‒ ‒‒‒‒‒‒‒‒‒‒ ‒‒‒‒‒‒‒‒‒‒ ‒‒‒‒‒‒‒‒‒‒ ‒‒‒‒‒‒‒‒‒‒ ‒‒‒‒‒‒‒‒‒‒ ‒‒‒‒‒‒‒‒‒‒ ‒‒‒‒‒‒‒‒‒‒ ‒‒‒‒‒‒‒‒‒‒ ‒‒‒‒‒‒‒‒‒‒ ‒‒‒‒‒‒‒‒‒‒ ‒‒‒‒‒‒‒‒‒‒ ‒‒‒‒‒‒‒‒‒‒ ‒‒‒‒‒‒‒‒‒‒ ‒‒‒‒‒‒‒‒
‒‒‒‒‒‒‒‒‒‒ ‒‒‒‒‒‒‒‒‒‒ ‒‒‒‒‒‒‒‒‒‒ ‒‒‒‒‒‒‒‒‒‒ ‒‒‒‒‒‒‒‒‒‒ ‒‒‒‒‒‒‒‒‒‒ ‒‒‒‒‒‒‒‒‒‒ ‒‒‒‒‒‒‒‒‒‒ ‒‒‒‒‒‒‒‒‒‒ ‒‒‒‒‒‒‒‒‒‒ ‒‒‒‒‒‒‒‒‒‒ ‒‒‒‒‒‒‒‒‒‒ ‒‒‒‒‒‒‒‒‒‒ ‒‒‒‒‒‒‒‒‒‒ ‒‒‒‒‒‒‒‒‒‒ ‒‒‒‒‒‒‒‒‒‒ ‒‒‒‒‒‒‒‒‒‒ ‒‒‒‒‒‒‒‒‒‒ ‒‒‒‒‒‒‒‒‒‒ ‒‒‒‒‒‒‒‒‒‒ ‒‒‒‒‒‒‒‒‒‒ ‒‒‒‒‒‒‒‒‒‒ ‒‒‒‒‒‒‒‒‒‒ ‒‒‒‒‒‒‒‒‒‒ ‒‒‒‒‒‒‒‒‒‒ ‒‒‒‒‒‒‒‒‒‒ ‒‒‒‒‒‒‒‒‒‒ ‒‒‒‒‒‒‒‒‒‒ ‒‒‒‒‒‒‒‒‒‒ ‒‒‒‒‒‒‒‒‒‒ ‒‒‒‒‒‒‒‒‒‒ ‒‒‒‒‒‒‒‒‒‒ ‒‒‒‒‒‒‒‒‒‒ ‒‒‒‒‒‒‒‒‒‒ ‒‒‒‒‒‒‒‒‒‒ ‒‒‒‒‒‒‒‒‒‒ ‒‒‒‒‒‒‒‒‒‒ ‒‒‒‒‒‒‒‒‒‒ ‒‒‒‒‒‒‒‒‒‒ ‒‒‒‒‒‒‒‒‒‒ ‒‒‒‒‒‒‒‒‒‒ ‒‒‒‒‒‒‒‒‒‒ ‒‒‒‒‒‒‒‒‒‒ ‒‒‒‒‒‒‒‒‒‒ ‒‒‒‒‒‒‒‒‒‒ ‒‒‒‒‒‒‒‒‒‒ ‒‒‒‒‒‒‒‒‒‒ ‒‒‒‒‒‒‒‒‒‒ ‒‒‒‒‒‒‒‒‒‒ ‒‒‒‒‒‒‒‒‒‒ ‒‒‒‒‒‒‒‒‒‒ ‒‒‒‒‒‒‒‒‒‒ ‒‒‒‒‒‒‒‒‒‒ ‒‒‒‒‒‒‒‒‒‒ ‒‒‒‒‒‒‒‒‒‒ ‒‒‒‒‒‒‒‒‒‒ ‒‒‒‒‒‒‒‒‒‒ ‒‒‒‒‒‒‒‒‒‒ ‒‒‒‒‒‒‒‒‒‒ ‒‒‒‒‒‒‒‒‒‒ ‒‒‒‒‒‒‒‒‒‒ ‒‒‒‒‒‒‒‒‒‒ ‒‒‒‒‒‒‒‒‒‒ ‒‒‒‒‒‒‒‒‒‒ ‒‒‒‒‒‒‒‒‒‒ ‒‒‒‒‒‒‒‒‒‒ ‒‒‒‒‒‒‒‒‒‒ ‒‒‒‒‒‒‒‒‒‒ ‒‒‒‒‒‒‒‒‒‒ ‒‒‒‒‒‒‒‒‒‒ ‒‒‒‒‒‒‒‒‒‒ ‒‒‒‒‒‒‒‒‒‒ ‒‒‒‒‒‒‒‒‒‒ ‒‒‒‒‒‒‒‒‒‒ ‒‒‒‒‒‒‒‒‒‒ ‒‒‒‒‒‒‒‒‒‒ ‒‒‒‒‒‒‒‒‒‒ ‒‒‒‒‒‒‒‒‒‒ ‒‒‒‒‒‒‒‒‒‒ ‒‒‒‒‒‒‒‒‒‒ ‒‒‒‒‒‒‒‒‒‒ ‒‒‒‒‒‒‒‒‒‒ ‒‒‒‒‒‒‒‒‒‒ ‒‒‒‒‒‒‒‒‒‒ ‒‒‒‒‒‒‒‒‒‒ ‒‒‒‒‒‒‒‒‒‒ ‒‒‒‒‒‒‒‒‒‒ ‒‒‒‒‒‒‒‒‒‒ ‒‒‒‒‒‒‒‒‒‒ ‒‒‒‒‒‒‒‒‒‒ ‒‒‒‒‒‒‒‒‒‒ ‒‒‒‒‒‒‒‒‒‒ ‒‒‒‒‒‒‒‒‒‒ ‒‒‒‒‒‒‒‒‒‒ ‒‒‒‒‒‒‒‒‒‒ ‒‒‒‒‒‒‒‒‒‒ ‒‒‒‒‒‒‒‒‒‒ ‒‒‒‒‒‒‒‒‒‒ ‒‒‒‒‒‒‒‒‒‒ ‒‒‒‒‒‒‒‒‒‒ ‒‒‒‒‒‒‒‒‒‒ ‒‒‒‒‒‒‒‒‒‒ ‒‒‒‒‒‒‒‒‒‒ ‒‒‒‒‒‒‒‒‒‒ ‒‒‒‒‒‒‒‒‒‒ ‒‒‒‒‒‒‒‒‒‒ ‒‒‒‒‒‒‒‒‒‒ ‒‒‒‒‒‒‒‒‒‒ ‒‒‒‒‒‒‒‒‒‒ ‒‒‒‒‒‒‒‒‒‒ ‒‒‒‒‒‒‒‒‒‒ ‒‒‒‒‒‒‒‒‒‒ ‒‒‒‒‒‒‒‒‒‒ ‒‒‒‒‒‒‒‒‒‒ ‒‒‒‒‒‒‒‒‒‒ ‒‒‒‒‒‒‒‒‒‒ ‒‒‒‒‒‒‒‒‒‒ ‒‒‒‒‒‒‒‒‒‒ ‒‒‒‒‒‒‒‒‒‒ ‒‒‒‒‒‒‒‒‒‒ ‒‒‒‒‒‒‒‒‒‒ ‒‒‒‒‒‒‒‒‒‒ ‒‒‒‒‒‒‒‒‒‒ ‒‒‒‒‒‒‒‒‒‒ ‒‒‒‒‒‒‒‒‒‒ ‒‒‒‒‒‒‒‒‒‒ ‒‒‒‒‒‒‒‒‒‒ ‒‒‒‒‒‒‒‒‒‒ ‒‒‒‒‒‒‒‒‒‒ ‒‒‒‒‒‒‒‒‒‒ ‒‒‒‒‒‒‒‒‒‒ ‒‒‒‒‒‒‒‒‒‒ ‒‒‒‒‒‒‒‒‒‒ ‒‒‒‒‒‒‒‒‒‒ ‒‒‒‒‒‒‒‒‒‒ ‒‒‒‒‒‒‒‒‒‒ ‒‒‒‒‒‒‒‒‒‒ ‒‒‒‒‒‒‒‒‒‒ ‒‒‒‒‒‒‒‒‒‒ ‒‒‒‒‒‒‒‒‒‒ ‒‒‒‒‒‒‒‒‒‒ ‒‒‒‒‒‒‒‒‒‒ ‒‒‒‒‒‒‒‒‒‒ ‒‒‒‒‒‒‒‒‒‒ ‒‒‒‒‒‒‒‒‒‒ ‒‒‒‒‒‒‒‒‒‒ ‒‒‒‒‒‒‒‒‒‒ ‒‒‒‒‒‒‒‒‒‒ ‒‒‒‒‒‒‒‒‒‒ ‒‒‒‒‒‒‒‒‒‒ ‒‒‒‒‒‒‒‒‒‒ ‒‒‒‒‒‒‒‒‒‒ ‒‒‒‒‒‒‒‒‒‒ ‒‒‒‒‒‒‒‒‒‒ ‒‒‒‒‒‒‒‒‒‒ ‒‒‒‒‒‒‒‒‒‒ ‒‒‒‒‒‒‒‒‒‒ ‒‒‒‒‒‒‒‒‒‒ ‒‒‒‒‒‒‒‒‒‒ ‒‒‒‒‒‒‒‒‒‒ ‒‒‒‒‒‒‒‒‒‒ ‒‒‒‒‒‒‒‒‒‒ ‒‒‒‒‒‒‒‒‒‒ ‒‒‒‒‒‒‒‒‒‒ ‒‒‒‒‒‒‒‒‒‒ ‒‒‒‒‒‒‒‒‒‒ ‒‒‒‒‒‒‒‒‒‒ ‒‒‒‒‒‒‒‒‒‒ ‒‒‒‒‒‒‒‒‒‒ ‒‒‒‒‒‒‒‒‒‒ ‒‒‒‒‒‒‒‒‒‒ ‒‒‒‒‒‒‒‒‒‒ ‒‒‒‒‒‒‒‒‒‒ ‒‒‒‒‒‒‒‒‒‒ ‒‒‒‒‒‒‒‒‒‒ ‒‒‒‒‒‒‒‒‒‒ ‒‒‒‒‒‒‒‒‒‒ ‒‒‒‒‒‒‒‒‒‒ ‒‒‒‒‒‒‒‒‒‒ ‒‒‒‒‒‒‒‒‒‒ ‒‒‒‒‒‒‒‒‒‒ ‒‒‒‒‒‒‒‒‒‒ ‒‒‒‒‒‒‒‒‒‒ ‒‒‒‒‒‒‒‒‒‒ ‒‒‒‒‒‒‒‒‒‒ ‒‒‒‒‒‒‒‒‒‒ ‒‒‒‒‒‒‒‒‒‒ ‒‒‒‒‒‒‒‒‒‒ ‒‒‒‒‒‒‒‒‒‒ ‒‒‒‒‒‒‒‒‒‒ ‒‒‒‒‒‒‒‒‒‒ ‒‒‒‒‒‒‒‒‒‒ ‒‒‒‒‒‒‒‒‒‒ ‒‒‒‒‒‒‒‒‒‒ ‒‒‒‒‒‒‒‒‒‒ ‒‒‒‒‒‒‒‒‒‒ ‒‒‒‒‒‒‒‒‒‒ ‒‒‒‒‒‒‒‒‒‒ ‒‒‒‒‒‒‒‒‒‒ ‒‒‒‒‒‒‒‒‒‒ ‒‒‒‒‒‒‒‒‒‒ ‒‒‒‒‒‒‒‒‒‒ ‒‒‒‒‒‒‒‒‒‒ ‒‒‒‒‒‒‒‒‒‒ ‒‒‒‒‒‒‒‒‒‒ ‒‒‒‒‒‒‒‒‒‒ ‒‒‒‒‒‒‒‒‒‒ ‒‒‒‒‒‒‒‒‒‒ ‒‒‒‒‒‒‒‒‒‒ ‒‒‒‒‒‒‒‒‒‒ ‒‒‒‒‒‒‒‒‒‒ ‒‒‒‒‒‒‒‒‒‒ ‒‒‒‒‒‒‒‒‒‒ ‒‒‒‒‒‒‒‒‒‒ ‒‒‒‒‒‒‒‒‒‒ ‒‒‒‒‒‒‒‒‒‒ ‒‒‒‒‒‒‒‒‒‒ ‒‒‒‒‒‒‒‒‒‒ ‒‒‒‒‒‒‒‒‒‒ ‒‒‒‒‒‒‒‒‒‒ ‒‒‒‒‒‒‒‒‒‒ ‒‒‒‒‒‒‒‒‒‒ ‒‒‒‒‒‒‒‒‒‒ ‒‒‒‒‒‒‒‒‒‒ ‒‒‒‒‒‒‒‒‒‒ ‒‒‒‒‒‒‒‒‒‒ ‒‒‒‒‒‒‒‒‒‒ ‒‒‒‒‒‒‒‒‒‒ ‒‒‒‒‒‒‒‒‒‒ ‒‒‒‒‒‒‒‒‒‒ ‒‒‒‒‒‒‒‒‒‒ ‒‒‒‒‒‒‒‒‒‒ ‒‒‒‒‒‒‒‒‒‒ ‒‒‒‒‒‒‒‒‒‒ ‒‒‒‒‒‒‒‒‒‒ ‒‒‒‒‒‒‒‒‒‒ ‒‒‒
‒‒‒‒‒‒‒‒‒ ‒‒‒‒‒‒‒‒‒‒ ‒‒‒‒‒‒‒‒‒‒ ‒‒‒‒‒‒‒‒‒‒ ‒‒‒‒‒‒‒‒‒‒ ‒‒‒‒‒‒‒‒‒‒ ‒‒‒‒‒‒‒‒‒‒ ‒‒‒‒‒‒‒‒‒‒ ‒‒‒‒‒‒‒‒‒‒ ‒‒‒‒‒‒‒‒‒‒ ‒‒‒‒‒‒‒‒‒‒ ‒‒‒‒‒‒‒‒‒‒ ‒‒‒‒‒‒‒‒‒‒ ‒‒‒‒‒‒‒‒‒‒ ‒‒‒‒‒‒‒‒‒‒ ‒‒‒‒‒‒‒‒‒‒ ‒‒‒‒‒‒‒‒‒‒ ‒‒‒‒‒‒‒‒‒‒ ‒‒‒‒‒‒‒‒‒‒ ‒‒‒‒‒‒‒‒‒‒ ‒‒‒‒‒‒‒‒‒‒ ‒‒‒‒‒‒‒‒‒‒ ‒‒‒‒‒‒‒‒‒‒ ‒‒‒‒‒‒‒‒‒‒ ‒‒‒‒‒‒‒‒‒‒ ‒‒‒‒‒‒‒‒‒‒ ‒‒‒‒‒‒‒‒‒‒ ‒‒‒‒‒‒‒‒‒‒ ‒‒‒‒‒‒‒‒‒‒ ‒‒‒‒‒‒‒‒‒‒ ‒‒‒‒‒‒‒‒‒‒ ‒‒‒‒‒‒‒‒‒‒ ‒‒‒‒‒‒‒‒‒‒ ‒‒‒‒‒‒‒‒‒‒ ‒‒‒‒‒‒‒‒‒‒ ‒‒‒‒‒‒‒‒‒‒ ‒‒‒‒‒‒‒‒‒‒ ‒‒‒‒‒‒‒‒‒‒ ‒‒‒‒‒‒‒‒‒‒ ‒‒‒‒‒‒‒‒‒‒ ‒‒‒‒‒‒‒‒‒‒ ‒‒‒‒‒‒‒‒‒‒ ‒‒‒‒‒‒‒‒‒‒ ‒‒‒‒‒‒‒‒‒‒ ‒‒‒‒‒‒‒‒‒‒ ‒‒‒‒‒‒‒‒‒‒ ‒‒‒‒‒‒‒‒‒‒ ‒‒‒‒‒‒‒‒‒‒ ‒‒‒‒‒‒‒‒‒‒ ‒‒‒‒‒‒‒‒‒‒ ‒‒‒‒‒‒‒‒‒‒ ‒‒‒‒‒‒‒‒‒‒ ‒‒‒‒‒‒‒‒‒‒ ‒‒‒‒‒‒‒‒‒‒ ‒‒‒‒‒‒‒‒‒‒ ‒‒‒‒‒‒‒‒‒‒ ‒‒‒‒‒‒‒‒‒‒ ‒‒‒‒‒‒‒‒‒‒ ‒‒‒‒‒‒‒‒‒‒ ‒‒‒‒‒‒‒‒‒‒ ‒‒‒‒‒‒‒‒‒‒ ‒‒‒‒‒‒‒‒‒‒ ‒‒‒‒‒‒‒‒‒‒ ‒‒‒‒‒‒‒‒‒‒ ‒‒‒‒‒‒‒‒‒‒ ‒‒‒‒‒‒‒‒‒‒ ‒‒‒‒‒‒‒‒‒‒ ‒‒‒‒‒‒‒‒‒‒ ‒‒‒‒‒‒‒‒‒‒ ‒‒‒‒‒‒‒‒‒‒ ‒‒‒‒‒‒‒‒‒‒ ‒‒‒‒‒‒‒‒‒‒ ‒‒‒‒‒‒‒‒‒‒ ‒‒‒‒‒‒‒‒‒‒ ‒‒‒‒‒‒‒‒‒‒ ‒‒‒‒‒‒‒‒‒‒ ‒‒‒‒‒‒‒‒‒‒ ‒‒‒‒‒‒‒‒‒‒ ‒‒‒‒‒‒‒‒‒‒ ‒‒‒‒‒‒‒‒‒‒ ‒‒‒‒‒‒‒‒‒‒ ‒‒‒‒‒‒‒‒‒‒ ‒‒‒‒‒‒‒‒‒‒ ‒‒‒‒‒‒‒‒‒‒ ‒‒‒‒‒‒‒‒‒‒ ‒‒‒‒‒‒‒‒‒‒ ‒‒‒‒‒‒‒‒‒‒ ‒‒‒‒‒‒‒‒‒‒ ‒‒‒‒‒‒‒‒‒‒ ‒‒‒‒‒‒‒‒‒‒ ‒‒‒‒‒‒‒‒‒‒ ‒‒‒‒‒‒‒‒‒‒ ‒‒‒‒‒‒‒‒‒‒ ‒‒‒‒‒‒‒‒‒‒ ‒‒‒‒‒‒‒‒‒‒ ‒‒‒‒‒‒‒‒‒‒ ‒‒‒‒‒‒‒‒‒‒ ‒‒‒‒‒‒‒‒‒‒ ‒‒‒‒‒‒‒‒‒‒ ‒‒‒‒‒‒‒‒‒‒ ‒‒‒‒‒‒‒‒‒‒ ‒‒‒‒‒‒‒‒‒‒ ‒‒‒‒‒‒‒‒‒‒ ‒‒‒‒‒‒‒‒‒‒ ‒‒‒‒‒‒‒‒‒‒ ‒‒‒‒‒‒‒‒‒‒ ‒‒‒‒‒‒‒‒‒‒ ‒‒‒‒‒‒‒‒‒‒ ‒‒‒‒‒‒‒‒‒‒ ‒‒‒‒‒‒‒‒‒‒ ‒‒‒‒‒‒‒‒‒‒ ‒‒‒‒‒‒‒‒‒‒ ‒‒‒‒‒‒‒‒‒‒ ‒‒‒‒‒‒‒‒‒‒ ‒‒‒‒‒‒‒‒‒‒ ‒‒‒‒‒‒‒‒‒‒ ‒‒‒‒‒‒‒‒‒‒ ‒‒‒‒‒‒‒‒‒‒ ‒‒‒‒‒‒‒‒‒‒ ‒‒‒‒‒‒‒‒‒‒ ‒‒‒‒‒‒‒‒‒‒ ‒‒‒‒‒‒‒‒‒‒ ‒‒‒‒‒‒‒‒‒‒ ‒‒‒‒‒‒‒‒‒‒ ‒‒‒‒‒‒‒‒‒‒ ‒‒‒‒‒‒‒‒‒‒ ‒‒‒‒‒‒‒‒‒‒ ‒‒‒‒‒‒‒‒‒‒ ‒‒‒‒‒‒‒‒‒‒ ‒‒‒‒‒‒‒‒‒‒ ‒‒‒‒‒‒‒‒‒‒ ‒‒‒‒‒‒‒‒‒‒ ‒‒‒‒‒‒‒‒‒‒ ‒‒‒‒‒‒‒‒‒‒ ‒‒‒‒‒‒‒‒‒‒ ‒‒‒‒‒‒‒‒‒‒ ‒‒‒‒‒‒‒‒‒‒ ‒‒‒‒‒‒‒‒‒‒ ‒‒‒‒‒‒‒‒‒‒ ‒‒‒‒‒‒‒‒‒‒ ‒‒‒‒‒‒‒‒‒‒ ‒‒‒‒‒‒‒‒‒‒ ‒‒‒‒‒‒‒‒‒‒ ‒‒‒‒‒‒‒‒‒‒ ‒‒‒‒‒‒‒‒‒‒ ‒‒‒‒‒‒‒‒‒‒ ‒‒‒‒‒‒‒‒‒‒ ‒‒‒‒‒‒‒‒‒‒ ‒‒‒‒‒‒‒‒‒‒ ‒‒‒‒‒‒‒‒‒‒ ‒‒‒‒‒‒‒‒‒‒ ‒‒‒‒‒‒‒‒‒‒ ‒‒‒‒‒‒‒‒‒‒ ‒‒‒‒‒‒‒‒‒‒ ‒‒‒‒‒‒‒‒‒‒ ‒‒‒‒‒‒‒‒‒‒ ‒‒‒‒‒‒‒‒‒‒ ‒‒‒‒‒‒‒‒‒‒ ‒‒‒‒‒‒‒‒‒‒ ‒‒‒‒‒‒‒‒‒‒ ‒‒‒‒‒‒‒‒‒‒ ‒‒‒‒‒‒‒‒‒‒ ‒‒‒‒‒‒‒‒‒‒ ‒‒‒‒‒‒‒‒‒‒ ‒‒‒‒‒‒‒‒‒‒ ‒‒‒‒‒‒‒‒‒‒ ‒‒‒‒‒‒‒‒‒‒ ‒‒‒‒‒‒‒‒‒‒ ‒‒‒‒‒‒‒‒‒‒ ‒‒‒‒‒‒‒‒‒‒ ‒‒‒‒‒‒‒‒‒‒ ‒‒‒‒‒‒‒‒‒‒ ‒‒‒‒‒‒‒‒‒
‒‒‒‒‒‒‒ ‒‒‒‒‒‒‒‒‒‒ ‒‒‒‒‒‒‒‒‒‒ ‒‒‒‒‒‒‒‒‒‒ ‒‒‒‒‒‒‒‒‒‒ ‒‒‒‒‒‒‒‒‒‒ ‒‒‒‒‒‒‒‒‒‒ ‒‒‒‒‒‒‒‒‒‒ ‒‒‒‒‒‒‒‒‒‒ ‒‒‒‒‒‒‒‒‒‒ ‒‒‒‒‒‒‒‒‒‒ ‒‒‒‒‒‒‒‒‒‒ ‒‒‒‒‒‒‒‒‒‒ ‒‒‒‒‒‒‒‒‒‒ ‒‒‒‒‒‒‒‒‒‒ ‒‒‒‒‒‒‒‒‒‒ ‒‒‒‒‒‒‒‒‒‒ ‒‒‒‒‒‒‒‒‒‒ ‒‒‒‒‒‒‒‒‒‒ ‒‒‒‒‒‒‒‒‒‒ ‒‒‒‒‒‒‒‒‒‒ ‒‒‒‒‒‒‒‒‒‒ ‒‒‒‒‒‒‒‒‒‒ ‒‒‒‒‒‒‒‒‒‒ ‒‒‒‒‒‒‒‒‒‒ ‒‒‒‒‒‒‒‒‒‒ ‒‒‒‒‒‒‒‒‒‒ ‒‒‒‒‒‒‒‒‒‒ ‒‒‒‒‒‒‒‒‒‒ ‒‒‒‒‒‒‒‒‒‒ ‒‒‒‒‒‒‒‒‒‒ ‒‒‒‒‒‒‒‒‒‒ ‒‒‒‒‒‒‒‒‒‒ ‒‒‒‒‒‒‒‒‒‒ ‒‒‒‒‒‒‒‒‒‒ ‒‒‒‒‒‒‒‒‒‒ ‒‒‒‒‒‒‒‒‒‒ ‒‒‒‒‒‒‒‒‒‒ ‒‒‒‒‒‒‒‒‒‒ ‒‒‒‒‒‒‒‒‒‒ ‒‒‒‒‒‒‒‒‒‒ ‒‒‒‒‒‒‒‒‒‒ ‒‒‒‒‒‒‒‒‒‒ ‒‒‒‒‒‒‒‒‒‒ ‒‒‒‒‒‒‒‒‒‒ ‒‒‒‒‒‒‒‒‒‒ ‒‒‒‒‒‒‒‒‒‒ ‒‒‒‒‒‒‒‒‒‒ ‒‒‒‒‒‒‒‒‒‒ ‒‒‒‒‒‒‒‒‒‒ ‒‒‒‒‒‒‒‒‒‒ ‒‒‒‒‒‒‒‒‒‒ ‒‒‒‒‒‒‒‒‒‒ ‒‒‒‒‒‒‒‒‒‒ ‒‒‒‒‒‒‒‒‒‒ ‒‒‒‒‒‒‒‒‒‒ ‒‒‒‒‒‒‒‒‒‒ ‒‒‒‒‒‒‒‒‒‒ ‒‒‒‒‒‒‒‒‒‒ ‒‒‒‒‒‒‒‒‒‒ ‒‒‒‒‒‒‒‒‒‒ ‒‒‒‒‒‒‒‒‒‒ ‒‒‒‒‒‒‒‒‒‒ ‒‒‒‒‒‒‒‒‒‒ ‒‒‒‒‒‒‒‒‒‒ ‒‒‒‒‒‒‒‒‒‒ ‒‒‒‒‒‒‒‒‒‒ ‒‒‒‒‒‒‒‒‒‒ ‒‒‒‒‒‒‒‒‒‒ ‒‒‒‒‒‒‒‒‒‒ ‒‒‒‒‒‒‒‒‒‒ ‒‒‒‒‒‒‒‒‒‒ ‒‒‒‒‒‒‒‒‒‒ ‒‒‒‒‒‒‒‒‒‒ ‒‒‒‒‒‒‒‒‒‒ ‒‒‒‒‒‒‒‒‒‒ ‒‒‒‒‒‒‒‒‒‒ ‒‒‒‒‒‒‒‒‒‒ ‒‒‒‒‒‒‒‒‒‒ ‒‒‒‒‒‒‒‒‒‒ ‒‒‒‒‒‒‒‒‒‒ ‒‒‒‒‒‒‒‒‒‒ ‒‒‒‒‒‒‒‒‒‒ ‒‒‒‒‒‒‒‒‒‒ ‒‒‒‒‒‒‒‒‒‒ ‒‒‒‒‒‒‒‒‒‒ ‒‒‒‒‒‒‒‒‒‒ ‒‒‒‒‒‒‒‒‒‒ ‒‒‒‒‒‒‒‒‒‒ ‒‒‒‒‒‒‒‒‒‒ ‒‒‒‒‒‒‒‒‒‒ ‒‒‒‒‒‒‒‒‒‒ ‒‒‒‒‒‒‒‒‒‒ ‒‒‒‒‒‒‒‒‒‒ ‒‒‒‒‒‒‒‒‒‒ ‒‒‒‒‒‒‒‒‒‒ ‒‒‒‒‒‒‒‒‒‒ ‒‒‒‒‒‒‒‒‒‒ ‒‒‒‒‒‒‒‒‒‒ ‒‒‒‒‒‒‒‒‒‒ ‒‒‒‒‒‒‒‒‒‒ ‒‒‒‒‒‒‒‒‒‒ ‒‒‒‒‒‒‒‒‒‒ ‒‒‒‒‒‒‒‒‒‒ ‒‒‒‒‒‒‒‒‒‒ ‒‒‒‒‒‒‒‒‒‒ ‒‒‒‒‒‒‒‒‒‒ ‒‒‒‒‒‒‒‒‒‒ ‒‒‒‒‒‒‒‒‒‒ ‒‒‒‒‒‒‒‒‒‒ ‒‒‒‒‒‒‒‒‒‒ ‒‒‒‒‒‒‒‒‒‒ ‒‒‒‒‒‒‒‒‒‒ ‒‒‒‒‒‒‒‒‒‒ ‒‒‒‒‒‒‒‒‒‒ ‒‒‒‒‒‒‒‒‒‒ ‒‒‒‒‒‒‒‒‒‒ ‒‒‒‒‒‒‒‒‒‒ ‒‒‒‒‒‒‒‒‒‒ ‒‒‒‒‒‒‒‒‒‒ ‒‒‒‒‒‒‒‒‒‒ ‒‒‒‒‒‒‒‒‒‒ ‒‒‒‒‒‒‒‒‒‒ ‒‒‒‒‒‒‒‒‒‒ ‒‒‒‒‒‒‒‒‒‒ ‒‒‒‒‒‒‒‒‒‒ ‒‒‒‒‒‒‒‒‒‒ ‒‒‒‒‒‒‒‒‒‒ ‒‒‒‒‒‒‒‒‒‒ ‒‒‒‒‒‒‒‒‒‒ ‒‒‒‒‒‒‒‒‒‒ ‒‒‒‒‒‒‒‒‒‒ ‒‒‒‒‒‒‒‒‒‒ ‒‒‒‒‒‒‒‒‒‒ ‒‒‒‒‒‒‒‒‒‒ ‒‒‒‒‒‒‒‒‒‒ ‒‒‒‒‒‒‒‒‒‒ ‒‒‒‒‒‒‒‒‒‒ ‒‒‒‒‒‒‒‒‒‒ ‒‒‒‒‒‒‒‒‒‒ ‒‒‒‒‒‒‒‒‒‒ ‒‒‒‒‒‒‒‒‒‒ ‒‒‒‒‒‒‒‒‒‒ ‒‒‒‒‒‒‒‒‒‒ ‒‒‒‒‒‒‒‒‒‒ ‒‒‒‒‒‒‒‒‒‒ ‒‒‒‒‒‒‒‒‒‒ ‒‒‒‒‒‒‒‒‒‒ ‒‒‒‒‒‒‒‒‒‒ ‒‒‒‒‒‒‒‒‒‒ ‒‒‒‒‒‒‒‒‒‒ ‒‒‒‒‒‒‒‒‒‒ ‒‒‒‒‒‒‒‒‒‒ ‒‒‒‒‒‒‒‒‒‒ ‒‒‒‒‒‒‒‒‒‒ ‒‒‒‒‒‒‒‒‒‒ ‒‒‒‒‒‒‒‒‒‒ ‒‒‒‒‒‒‒‒‒‒ ‒‒‒‒‒‒‒‒‒‒ ‒‒‒‒‒‒‒‒‒‒ ‒‒‒‒‒‒‒‒‒‒ ‒‒‒‒‒‒‒‒‒‒ ‒‒‒‒‒‒‒‒‒‒ ‒‒‒‒‒‒‒‒‒‒ ‒‒‒‒‒‒‒‒‒‒ ‒‒‒‒‒‒‒‒‒‒ ‒‒‒‒‒‒‒‒‒‒ ‒‒‒‒‒‒‒‒‒‒ ‒‒‒‒‒‒‒‒‒‒ ‒‒‒‒‒‒‒‒‒‒ ‒‒‒‒‒‒‒‒‒‒ ‒‒‒‒‒‒‒‒‒‒ ‒‒‒‒‒‒‒‒‒‒ ‒‒‒‒‒‒‒‒‒‒ ‒‒‒‒‒‒‒‒‒‒ ‒‒‒‒‒‒‒‒‒‒ ‒‒‒‒‒‒‒‒‒‒ ‒‒‒‒‒‒‒‒‒‒ ‒‒‒‒‒‒‒‒‒‒ ‒‒‒‒‒‒‒‒‒‒ ‒‒‒‒‒‒‒‒‒‒ ‒‒‒‒‒‒‒‒‒‒ ‒‒‒‒‒‒‒‒‒‒ ‒‒‒‒‒‒‒‒‒‒ ‒‒‒‒‒‒‒‒‒‒ ‒‒‒‒‒‒‒‒‒‒ ‒‒‒‒‒‒‒‒‒‒ ‒‒‒‒‒‒‒‒‒‒ ‒‒‒‒‒‒‒‒‒‒ ‒‒‒‒‒‒‒‒‒‒ ‒‒‒‒‒‒‒‒‒‒ ‒‒‒‒‒‒‒‒‒‒ ‒‒‒‒‒‒‒‒‒‒ ‒‒‒‒‒‒‒‒‒‒ ‒‒‒‒‒‒‒‒‒‒ ‒‒‒‒‒‒‒‒‒‒ ‒‒‒‒‒‒‒‒‒‒ ‒‒‒‒‒‒‒‒‒‒ ‒‒‒‒‒‒‒‒‒‒ ‒‒‒‒‒‒‒‒‒‒ ‒‒‒‒‒‒‒‒‒‒ ‒‒‒‒‒‒‒‒‒‒ ‒‒‒‒‒‒‒‒‒‒ ‒‒‒‒‒‒‒‒‒‒ ‒‒‒‒‒‒‒‒‒‒ ‒‒‒‒‒‒‒‒‒‒ ‒‒‒‒‒‒‒‒‒‒ ‒‒‒‒‒‒‒‒‒‒ ‒‒‒‒‒‒‒‒‒‒ ‒‒‒‒‒‒‒‒‒‒ ‒‒‒‒‒‒‒‒‒‒ ‒‒‒‒‒‒‒‒‒‒ ‒‒‒‒‒‒‒‒‒‒ ‒‒‒‒‒‒‒‒‒‒ ‒‒‒‒‒‒‒‒‒‒ ‒‒‒‒‒‒‒‒‒‒ ‒‒‒‒‒‒‒‒‒‒ ‒‒‒‒‒‒‒‒‒‒ ‒‒‒‒‒‒‒‒‒‒ ‒‒‒‒‒‒‒‒‒‒ ‒‒‒‒‒‒‒‒‒‒ ‒‒‒‒‒‒‒‒‒‒ ‒‒‒‒‒‒‒‒‒‒ ‒‒‒‒‒‒‒‒‒‒ ‒‒‒‒‒‒‒‒‒‒ ‒‒‒‒‒‒‒‒‒‒ ‒‒‒‒‒‒‒‒‒‒ ‒‒‒‒‒‒‒‒‒‒ ‒‒‒‒‒‒‒‒‒‒ ‒‒‒‒‒‒‒‒‒‒ ‒‒‒‒‒‒‒‒‒‒ ‒‒‒‒‒‒‒‒‒‒ ‒‒‒‒‒‒‒‒‒‒ ‒‒‒‒‒‒‒‒‒‒ ‒‒‒‒‒‒‒‒‒‒ ‒‒‒‒‒‒‒‒‒‒ ‒‒‒‒‒‒‒‒‒‒ ‒‒‒‒‒‒‒‒‒‒ ‒‒‒‒‒‒‒‒‒‒ ‒‒‒‒‒‒‒‒‒‒ ‒‒‒‒‒‒‒‒‒‒ ‒‒‒‒‒‒‒‒‒‒ ‒‒‒‒‒‒‒‒‒‒ ‒‒‒‒‒‒‒‒‒‒ ‒‒‒‒‒‒‒‒‒‒ ‒‒‒‒‒‒‒‒‒‒ ‒‒‒‒‒‒‒‒‒‒ ‒‒‒‒‒‒‒‒‒‒ ‒‒‒‒‒‒‒‒‒‒ ‒‒‒‒‒‒‒‒‒‒ ‒‒‒‒‒‒‒‒‒‒ ‒‒‒‒‒‒‒‒‒‒ ‒‒‒‒‒‒‒‒‒‒ ‒‒‒‒‒‒‒‒‒‒ ‒‒‒‒‒‒‒‒‒
‒‒‒‒‒ ‒‒‒‒‒‒‒‒‒‒ ‒‒‒‒‒‒‒‒‒‒ ‒‒‒‒‒‒‒‒‒‒ ‒‒‒‒‒‒‒‒‒‒ ‒‒‒‒‒‒‒‒‒‒ ‒‒‒‒‒‒‒‒‒‒ ‒‒‒‒‒‒‒‒‒‒ ‒‒‒‒‒‒‒‒‒‒ ‒‒‒‒‒‒‒‒‒‒ ‒‒‒‒‒‒‒‒‒‒ ‒‒‒‒‒‒‒‒‒‒ ‒‒‒‒‒‒‒‒‒‒ ‒‒‒‒‒‒‒‒‒‒ ‒‒‒‒‒‒‒‒‒‒ ‒‒‒‒‒‒‒‒‒‒ ‒‒‒‒‒‒‒‒‒‒ ‒‒‒‒‒‒‒‒‒‒ ‒‒‒‒‒‒‒‒‒‒ ‒‒‒‒‒‒‒‒‒‒ ‒‒‒‒‒‒‒‒‒‒ ‒‒‒‒‒‒‒‒‒‒ ‒‒‒‒‒‒‒‒‒‒ ‒‒‒‒‒‒‒‒‒‒ ‒‒‒‒‒‒‒‒‒‒ ‒‒‒‒‒‒‒‒‒‒ ‒‒‒‒‒‒‒‒‒‒ ‒‒‒‒‒‒‒‒‒‒ ‒‒‒‒‒‒‒‒‒‒ ‒‒‒‒‒‒‒‒‒‒ ‒‒‒‒‒‒‒‒‒‒ ‒‒‒‒‒‒‒‒‒‒ ‒‒‒‒‒‒‒‒‒‒ ‒‒‒‒‒‒‒‒‒‒ ‒‒‒‒‒‒‒‒‒‒ ‒‒‒‒‒‒‒‒‒‒ ‒‒‒‒‒‒‒‒‒‒ ‒‒‒‒‒‒‒‒‒‒ ‒‒‒‒‒‒‒‒‒‒ ‒‒‒‒‒‒‒‒‒‒ ‒‒‒‒‒‒‒‒‒‒ ‒‒‒‒‒‒‒‒‒‒ ‒‒‒‒‒‒‒‒‒‒ ‒‒‒‒‒‒‒‒‒‒ ‒‒‒‒‒‒‒‒‒‒ ‒‒‒‒‒‒‒‒‒‒ ‒‒‒‒‒‒‒‒‒‒ ‒‒‒‒‒‒‒‒‒‒ ‒‒‒‒‒‒‒‒‒‒ ‒‒‒‒‒‒‒‒‒‒ ‒‒‒‒‒‒‒‒‒‒ ‒‒‒‒‒‒‒‒‒‒ ‒‒‒‒‒‒‒‒‒‒ ‒‒‒‒‒‒‒‒‒‒ ‒‒‒‒‒‒‒‒‒‒ ‒‒‒‒‒‒‒‒‒‒ ‒‒‒‒‒‒‒‒‒‒ ‒‒‒‒‒‒‒‒‒‒ ‒‒‒‒‒‒‒‒‒‒ ‒‒‒‒‒‒‒‒‒‒ ‒‒‒‒‒‒‒‒‒‒ ‒‒‒‒‒‒‒‒‒‒ ‒‒‒‒‒‒‒‒‒‒ ‒‒‒‒‒‒‒‒‒‒ ‒‒‒‒‒‒‒‒‒‒ ‒‒‒‒‒‒‒‒‒‒ ‒‒‒‒‒‒‒‒‒‒ ‒‒‒‒‒‒‒‒‒‒ ‒‒‒‒‒‒‒‒‒‒ ‒‒‒‒‒‒‒‒‒‒ ‒‒‒‒‒‒‒‒‒‒ ‒‒‒‒‒‒‒‒‒‒ ‒‒‒‒‒‒‒‒‒‒ ‒‒‒‒‒‒‒‒‒‒ ‒‒‒‒‒‒‒‒‒‒ ‒‒‒‒‒‒‒‒‒‒ ‒‒‒‒‒‒‒‒‒‒ ‒‒‒‒‒‒‒‒‒‒ ‒‒‒‒‒‒‒‒‒‒ ‒‒‒‒‒‒‒‒‒‒ ‒‒‒‒‒‒‒‒‒‒ ‒‒‒‒‒‒‒‒‒‒ ‒‒‒‒‒‒‒‒‒‒ ‒‒‒‒‒‒‒‒‒‒ ‒‒‒‒‒‒‒‒‒‒ ‒‒‒‒‒‒‒‒‒‒ ‒‒‒‒‒‒‒‒‒‒ ‒‒‒‒‒‒‒‒‒‒ ‒‒‒‒‒‒‒‒‒‒ ‒‒‒‒‒‒‒‒‒‒ ‒‒‒‒‒‒‒‒‒‒ ‒‒‒‒‒‒‒‒‒‒ ‒‒‒‒‒‒‒‒‒‒ ‒‒‒‒‒‒‒‒‒‒ ‒‒‒‒‒‒‒‒‒‒ ‒‒‒‒‒‒‒‒‒‒ ‒‒‒‒‒‒‒‒‒‒ ‒‒‒‒‒‒‒‒‒‒ ‒‒‒‒‒‒‒‒‒‒ ‒‒‒‒‒‒‒‒‒‒ ‒‒‒‒‒‒‒‒‒‒ ‒‒‒‒‒‒‒‒‒‒ ‒‒‒‒‒‒‒‒‒‒ ‒‒‒‒‒‒‒‒‒‒ ‒‒‒‒‒‒‒‒‒‒ ‒‒‒‒‒‒‒‒‒‒ ‒‒‒‒‒‒‒‒‒‒ ‒‒‒‒‒‒‒‒‒‒ ‒‒‒‒‒‒‒‒‒‒ ‒‒‒‒‒‒‒‒‒‒ ‒‒‒‒‒‒‒‒‒‒ ‒‒‒‒‒‒‒‒‒‒ ‒‒‒‒‒‒‒‒‒‒ ‒‒‒‒‒‒‒‒‒‒ ‒‒‒‒‒‒‒‒‒‒ ‒‒‒‒‒‒‒‒‒‒ ‒‒‒‒‒‒‒‒‒‒ ‒‒‒‒‒‒‒‒‒‒ ‒‒‒‒‒‒‒‒‒‒ ‒‒‒‒‒‒‒‒‒‒ ‒‒‒‒‒‒‒‒‒‒ ‒‒‒‒‒‒‒‒‒‒ ‒‒‒‒‒‒‒‒‒‒ ‒‒‒‒‒‒‒‒‒‒ ‒‒‒‒‒‒‒‒‒‒ ‒‒‒‒‒‒‒‒‒‒ ‒‒‒‒‒‒‒‒‒‒ ‒‒‒‒‒‒‒‒‒‒ ‒‒‒‒‒‒‒‒‒‒ ‒‒‒‒‒‒‒‒‒‒ ‒‒‒‒‒‒‒‒‒‒ ‒‒‒‒‒‒‒‒‒‒ ‒‒‒‒‒‒‒‒‒‒ ‒‒‒‒‒‒‒‒‒‒ ‒‒‒‒‒‒‒‒‒‒ ‒‒‒‒‒‒‒‒‒‒ ‒‒‒‒‒‒‒‒‒‒ ‒‒‒‒‒‒‒‒‒‒ ‒‒‒‒‒‒‒‒‒‒ ‒‒‒‒‒‒‒‒‒‒ ‒‒‒‒‒‒‒‒‒‒ ‒‒‒‒‒‒‒‒‒‒ ‒‒‒‒‒‒‒‒‒‒ ‒‒‒‒‒‒‒‒‒‒ ‒‒‒‒‒‒‒‒‒‒ ‒‒‒‒‒‒‒‒‒‒ ‒‒‒‒‒‒‒‒‒‒ ‒‒‒‒‒‒‒‒‒‒ ‒‒‒‒‒‒‒‒‒‒ ‒‒‒‒‒‒‒‒‒‒ ‒‒‒‒‒‒‒‒‒‒ ‒‒‒‒‒‒‒‒‒‒ ‒‒‒‒‒‒‒‒‒‒ ‒‒‒‒‒‒‒‒‒‒ ‒‒‒‒‒‒‒‒‒‒ ‒‒‒‒‒‒‒‒‒‒ ‒‒‒‒‒‒‒‒‒‒ ‒‒‒‒‒‒‒‒‒‒ ‒‒‒‒‒‒‒‒‒‒ ‒‒‒‒‒‒‒‒‒‒ ‒‒‒‒‒‒‒‒‒‒ ‒‒‒‒‒‒‒‒‒‒ ‒‒‒‒‒‒‒‒‒‒ ‒‒‒‒‒‒‒‒‒‒ ‒‒‒‒‒‒‒‒‒‒ ‒‒‒‒‒‒‒‒‒‒ ‒‒‒‒‒‒‒‒‒‒ ‒‒‒‒‒‒‒‒‒‒ ‒‒‒‒‒‒‒‒‒‒ ‒‒‒‒‒‒‒‒‒‒ ‒‒‒‒‒‒‒‒‒‒ ‒‒‒‒‒‒‒‒‒‒ ‒‒‒‒‒‒‒‒‒‒ ‒‒‒‒‒‒‒‒‒‒ ‒‒‒‒‒‒‒‒‒‒ ‒‒‒‒‒‒‒‒‒‒ ‒‒‒‒‒‒‒‒‒‒ ‒‒‒‒‒‒‒‒‒‒ ‒‒‒‒‒‒‒‒‒‒ ‒‒‒‒‒‒‒‒‒‒ ‒‒‒‒‒‒‒‒‒‒ ‒‒‒‒‒‒‒‒‒‒ ‒‒‒‒‒‒‒‒‒‒ ‒‒‒‒‒‒‒‒‒‒ ‒‒‒‒‒‒‒‒‒‒ ‒‒‒‒‒‒‒‒‒‒ ‒‒‒‒‒‒‒‒‒‒ ‒‒‒‒‒‒‒‒‒‒ ‒‒‒‒‒‒‒‒‒‒ ‒‒‒‒‒‒‒‒‒‒ ‒‒‒‒‒‒‒‒‒‒ ‒‒‒‒‒‒‒‒‒‒ ‒‒‒‒‒‒‒‒‒‒ ‒‒‒‒‒‒‒‒‒‒ ‒‒‒‒‒‒‒‒‒‒ ‒‒‒‒‒‒‒‒‒‒ ‒‒‒‒‒‒‒‒‒‒ ‒‒‒‒‒‒‒‒‒‒ ‒‒‒‒‒‒‒‒‒‒ ‒‒‒‒‒‒‒‒‒‒ ‒‒‒‒‒‒‒‒‒‒ ‒‒‒‒‒‒‒‒‒‒ ‒‒‒‒‒‒‒‒‒‒ ‒‒‒‒‒‒‒‒‒‒ ‒‒‒‒‒‒‒‒‒‒ ‒‒‒‒‒‒‒‒‒‒ ‒‒‒‒‒‒‒‒‒‒ ‒‒‒‒‒‒‒‒‒‒ ‒‒‒‒‒‒‒‒‒‒ ‒‒‒‒‒‒‒‒‒‒ ‒‒‒‒‒‒‒‒‒‒ ‒‒‒‒‒‒‒‒‒‒ ‒‒‒‒‒‒‒‒‒‒ ‒‒‒‒‒‒‒‒‒‒ ‒‒‒‒‒‒‒‒‒‒ ‒‒‒‒‒‒‒‒‒‒ ‒‒‒‒‒‒‒‒‒‒ ‒‒‒‒‒‒‒‒‒‒ ‒‒‒‒‒‒‒
‒‒‒ ‒‒‒‒‒‒‒‒‒‒ ‒‒‒‒‒‒‒‒‒‒ ‒‒‒‒‒‒‒‒‒‒ ‒‒‒‒‒‒‒‒‒‒ ‒‒‒‒‒‒‒‒‒‒ ‒‒‒‒‒‒‒‒‒‒ ‒‒‒‒‒‒‒‒‒‒ ‒‒‒‒‒‒‒‒‒‒ ‒‒‒‒‒‒‒‒‒‒ ‒‒‒‒‒‒‒‒‒‒ ‒‒‒‒‒‒‒‒‒‒ ‒‒‒‒‒‒‒‒‒‒ ‒‒‒‒‒‒‒‒‒‒ ‒‒‒‒‒‒‒‒‒‒ ‒‒‒‒‒‒‒‒‒‒ ‒‒‒‒‒‒‒‒‒‒ ‒‒‒‒‒‒‒‒‒‒ ‒‒‒‒‒‒‒‒‒‒ ‒‒‒‒‒‒‒‒‒‒ ‒‒‒‒‒‒‒‒‒‒ ‒‒‒‒‒‒‒‒‒‒ ‒‒‒‒‒‒‒‒‒‒ ‒‒‒‒‒‒‒‒‒‒ ‒‒‒‒‒‒‒‒‒‒ ‒‒‒‒‒‒‒‒‒‒ ‒‒‒‒‒‒‒‒‒‒ ‒‒‒‒‒‒‒‒‒‒ ‒‒‒‒‒‒‒‒‒‒ ‒‒‒‒‒‒‒‒‒‒ ‒‒‒‒‒‒‒‒‒‒ ‒‒‒‒‒‒‒‒‒‒ ‒‒‒‒‒‒‒‒‒‒ ‒‒‒‒‒‒‒‒‒‒ ‒‒‒‒‒‒‒‒‒‒ ‒‒‒‒‒‒‒‒‒‒ ‒‒‒‒‒‒‒‒‒‒ ‒‒‒‒‒‒‒‒‒‒ ‒‒‒‒‒‒‒‒‒‒ ‒‒‒‒‒‒‒‒‒‒ ‒‒‒‒‒‒‒‒‒‒ ‒‒‒‒‒‒‒‒‒‒ ‒‒‒‒‒‒‒‒‒‒ ‒‒‒‒‒‒‒‒‒‒ ‒‒‒‒‒‒‒‒‒‒ ‒‒‒‒‒‒‒‒‒‒ ‒‒‒‒‒‒‒‒‒‒ ‒‒‒‒‒‒‒‒‒‒ ‒‒‒‒‒‒‒‒‒‒ ‒‒‒‒‒‒‒‒‒‒ ‒‒‒‒‒‒‒‒‒‒ ‒‒‒‒‒‒‒‒‒‒ ‒‒‒‒‒‒‒‒‒‒ ‒‒‒‒‒‒‒‒‒‒ ‒‒‒‒‒‒‒‒‒‒ ‒‒‒‒‒‒‒‒‒‒ ‒‒‒‒‒‒‒‒‒‒ ‒‒‒‒‒‒‒‒‒‒ ‒‒‒‒‒‒‒‒‒‒ ‒‒‒‒‒‒‒‒‒‒ ‒‒‒‒‒‒‒‒‒‒ ‒‒‒‒‒‒‒‒‒‒ ‒‒‒‒‒‒‒‒‒‒ ‒‒‒‒‒‒‒‒‒‒ ‒‒‒‒‒‒‒‒‒‒ ‒‒‒‒‒‒‒‒‒‒ ‒‒‒‒‒‒‒‒‒‒ ‒‒‒‒‒‒‒‒‒‒ ‒‒‒‒‒‒‒‒‒‒ ‒‒‒‒‒‒‒‒‒‒ ‒‒‒‒‒‒‒‒‒‒ ‒‒‒‒‒‒‒‒‒‒ ‒‒‒‒‒‒‒‒‒‒ ‒‒‒‒‒‒‒‒‒‒ ‒‒‒‒‒‒‒‒‒‒ ‒‒‒‒‒‒‒‒‒‒ ‒‒‒‒‒‒‒‒‒‒ ‒‒‒‒‒‒‒‒‒‒ ‒‒‒‒‒‒‒‒‒‒ ‒‒‒‒‒‒‒‒‒‒ ‒‒‒‒‒‒‒‒‒‒ ‒‒‒‒‒‒‒‒‒‒ ‒‒‒‒‒‒‒‒‒‒ ‒‒‒‒‒‒‒‒‒‒ ‒‒‒‒‒‒‒‒‒‒ ‒‒‒‒‒‒‒‒‒‒ ‒‒‒‒‒‒‒‒‒‒ ‒‒‒‒‒‒‒‒‒‒ ‒‒‒‒‒‒‒‒‒‒ ‒‒‒‒‒‒‒‒‒‒ ‒‒‒‒‒‒‒‒‒‒ ‒‒‒‒‒‒‒‒‒‒ ‒‒‒‒‒‒‒‒‒‒ ‒‒‒‒‒‒‒‒‒‒ ‒‒‒‒‒‒‒‒‒‒ ‒‒‒‒‒‒‒‒‒‒ ‒‒‒‒‒‒‒‒‒‒ ‒‒‒‒‒‒‒‒‒‒ ‒‒‒‒‒‒‒‒‒‒ ‒‒‒‒‒‒‒‒‒‒ ‒‒‒‒‒‒‒‒‒‒ ‒‒‒‒‒‒‒‒‒‒ ‒‒‒‒‒‒‒‒‒‒ ‒‒‒‒‒‒‒‒‒‒ ‒‒‒‒‒‒‒‒‒‒ ‒‒‒‒‒‒‒‒‒‒ ‒‒‒‒‒‒‒‒‒‒ ‒‒‒‒‒‒‒‒‒‒ ‒‒‒‒‒‒‒‒‒‒ ‒‒‒‒‒‒‒‒‒‒ ‒‒‒‒‒‒‒‒‒‒ ‒‒‒‒‒‒‒‒‒‒ ‒‒‒‒‒‒‒‒‒‒ ‒‒‒‒‒‒‒‒‒‒ ‒‒‒‒‒‒‒‒‒‒ ‒‒‒‒‒‒‒‒‒‒ ‒‒‒‒‒‒‒‒‒‒ ‒‒‒‒‒‒‒‒‒‒ ‒‒‒‒‒‒‒‒‒‒ ‒‒‒‒‒‒‒‒‒‒ ‒‒‒‒‒‒‒‒‒‒ ‒‒‒‒‒‒‒‒‒‒ ‒‒‒‒‒‒‒‒‒‒ ‒‒‒‒‒‒‒‒‒‒ ‒‒‒‒‒‒‒‒‒‒ ‒‒‒‒‒‒‒‒‒‒ ‒‒‒‒‒‒‒‒‒‒ ‒‒‒‒‒‒‒‒‒‒ ‒‒‒‒‒‒‒‒‒‒ ‒‒‒‒‒‒‒‒‒‒ ‒‒‒‒‒‒‒‒‒‒ ‒‒‒‒‒‒‒‒‒‒ ‒‒‒‒‒‒‒‒‒‒ ‒‒‒‒‒‒‒‒‒‒ ‒‒‒‒‒‒‒‒‒‒ ‒‒‒‒‒‒‒‒‒‒ ‒‒‒‒‒‒‒‒‒‒ ‒‒‒‒‒‒‒‒‒‒ ‒‒‒‒‒‒‒‒‒‒ ‒‒‒‒‒‒‒‒‒‒ ‒‒‒‒‒‒‒‒‒‒ ‒‒‒‒‒‒‒‒‒‒ ‒‒‒‒‒‒‒‒‒‒ ‒‒‒‒‒‒‒‒‒‒ ‒‒‒‒‒‒‒‒‒‒ ‒‒‒‒‒‒‒‒‒‒ ‒‒‒‒‒‒‒‒‒‒ ‒‒‒‒‒‒‒‒‒‒ ‒‒‒‒‒‒‒‒‒‒ ‒‒‒‒‒‒‒‒‒‒ ‒‒‒‒‒‒‒‒‒‒ ‒‒‒‒‒‒‒‒‒‒ ‒‒‒‒‒‒‒‒‒‒ ‒‒‒‒‒‒‒‒‒‒ ‒‒‒‒‒‒‒‒‒‒ ‒‒‒‒‒‒‒‒‒‒ ‒‒‒‒‒‒‒‒‒‒ ‒‒‒‒‒‒‒‒‒‒ ‒‒‒‒‒‒‒‒‒‒ ‒‒‒‒‒‒‒‒‒‒ ‒‒‒‒‒‒‒‒‒‒ ‒‒‒‒‒‒‒‒‒‒ ‒‒‒‒‒‒‒‒‒‒ ‒‒‒‒‒‒‒‒‒‒ ‒‒‒‒‒‒‒‒‒‒ ‒‒‒‒‒‒‒‒‒‒ ‒‒‒‒‒‒‒‒‒‒ ‒‒‒‒‒‒‒‒‒‒ ‒‒‒‒‒‒‒‒‒‒ ‒‒‒‒‒‒‒‒‒‒ ‒‒‒‒‒‒‒‒‒‒ ‒‒‒‒‒‒‒‒‒‒ ‒‒‒‒‒‒‒‒‒‒ ‒‒‒‒‒‒‒‒‒‒ ‒‒‒‒‒‒‒‒‒‒ ‒‒‒‒‒‒‒‒‒‒ ‒‒‒‒‒‒‒‒‒‒ ‒‒‒‒‒‒‒‒‒‒ ‒‒‒‒‒‒‒‒‒‒ ‒‒‒‒‒‒‒‒‒‒ ‒‒‒‒‒‒‒‒‒‒ ‒‒‒‒‒‒‒‒‒‒ ‒‒‒‒‒‒‒‒‒‒ ‒‒‒‒‒‒‒‒‒‒ ‒‒‒‒‒‒‒‒‒‒ ‒‒‒‒‒‒‒‒‒‒ ‒‒‒‒‒‒‒‒‒‒ ‒‒‒‒‒‒‒‒‒‒ ‒‒‒‒‒‒‒‒‒‒ ‒‒‒‒‒‒‒‒‒‒ ‒‒‒‒‒‒‒‒‒‒ ‒‒‒‒‒‒‒‒‒‒ ‒‒‒‒‒‒‒‒‒‒ ‒‒‒‒‒‒‒‒‒‒ ‒‒‒‒‒‒‒‒‒‒ ‒‒‒‒‒‒‒‒‒‒ ‒‒‒‒‒‒‒‒‒‒ ‒‒‒‒‒‒‒‒‒‒ ‒‒‒‒‒‒‒‒‒‒ ‒‒‒‒‒‒‒‒‒‒ ‒‒‒‒‒‒‒‒‒‒ ‒‒‒‒‒‒‒‒‒‒ ‒‒‒‒‒‒‒‒‒‒ ‒‒‒‒‒‒‒‒‒‒ ‒‒‒‒‒‒‒‒‒‒ ‒‒‒‒‒‒‒‒‒‒ ‒‒‒‒‒‒‒‒‒‒ ‒‒‒‒‒‒‒‒‒‒ ‒‒‒‒‒‒‒‒‒‒ ‒‒‒‒‒‒‒‒‒‒ ‒‒‒‒‒‒‒‒‒‒ ‒‒‒‒‒‒‒‒‒‒ ‒‒‒‒‒‒‒‒‒‒ ‒‒‒‒‒‒‒‒‒‒ ‒‒‒‒‒‒‒‒‒‒ ‒‒‒‒‒‒‒‒‒‒ ‒‒‒‒‒‒‒‒‒‒ ‒‒‒‒‒‒‒‒‒‒ ‒‒‒‒‒‒‒‒‒‒ ‒‒‒‒‒‒‒‒‒‒ ‒‒‒‒‒‒‒‒‒‒ ‒‒‒‒‒‒‒‒‒‒ ‒‒‒‒‒‒‒‒‒‒ ‒‒‒‒‒‒‒‒‒‒ ‒‒‒‒‒‒‒‒‒‒ ‒‒‒‒‒‒‒‒‒‒ ‒‒‒‒‒‒‒‒‒‒ ‒‒‒‒‒‒‒‒‒‒ ‒‒‒‒‒‒‒‒‒‒ ‒‒‒‒‒‒‒‒‒‒ ‒‒‒‒‒‒‒‒‒‒ ‒‒‒‒‒‒‒‒‒‒ ‒‒‒‒‒‒‒‒‒‒ ‒‒‒‒‒‒‒‒‒‒ ‒‒‒‒‒‒‒‒‒‒ ‒‒‒‒‒‒‒‒‒‒ ‒‒‒‒‒‒‒‒‒‒ ‒‒‒‒‒‒‒‒‒‒ ‒‒‒‒‒‒‒‒‒‒ ‒‒‒‒‒‒‒‒‒‒ ‒‒‒‒‒‒‒‒‒‒ ‒‒‒‒‒‒‒‒‒‒ ‒‒‒‒‒‒‒‒‒‒ ‒‒‒‒‒‒‒‒‒‒ ‒‒‒‒‒‒‒‒‒‒ ‒‒‒‒‒‒‒‒‒‒ ‒‒‒‒‒‒‒‒‒‒ ‒‒‒‒‒‒‒‒‒‒ ‒‒‒‒‒‒‒‒‒‒ ‒‒‒‒‒‒‒‒‒‒ ‒‒‒‒‒‒‒‒‒‒ ‒‒‒‒‒‒‒‒‒‒ ‒‒‒‒‒‒‒‒‒‒ ‒‒‒‒‒‒‒‒‒‒ ‒‒‒‒‒‒‒‒‒‒ ‒‒‒‒‒‒‒‒‒‒ ‒‒‒‒‒‒‒‒‒‒ ‒‒‒‒‒‒‒‒‒‒ ‒‒‒‒‒‒‒‒‒‒ ‒‒‒‒‒‒‒‒‒‒ ‒‒‒‒‒‒‒‒‒‒ ‒‒‒‒‒‒‒‒‒‒ ‒‒‒‒‒‒‒‒‒‒ ‒‒‒‒‒‒‒‒‒‒ ‒‒‒‒‒‒‒‒‒‒ ‒‒‒‒‒‒‒‒‒‒ ‒‒‒‒‒‒‒‒‒‒ ‒‒‒‒‒‒‒‒‒‒ ‒‒‒‒‒‒‒‒‒‒ ‒‒‒‒‒‒‒‒‒‒ ‒‒‒‒‒‒‒‒‒‒ ‒‒‒‒‒‒‒‒‒‒ ‒‒‒‒‒‒‒‒‒‒ ‒‒‒‒
ÉCHOS DE PARTOUT
‒ ‒‒‒‒‒‒‒‒‒‒ ‒‒‒‒‒‒‒‒‒‒ ‒‒‒‒‒‒‒‒‒‒ ‒‒‒‒‒‒‒‒‒‒ ‒‒‒‒‒‒‒‒‒‒ ‒‒‒‒‒‒‒‒‒‒ ‒‒‒‒‒‒‒‒‒‒ ‒‒‒‒‒‒‒‒‒‒ ‒‒‒‒‒‒‒‒‒‒ ‒‒‒‒‒‒‒‒‒‒ ‒‒‒‒‒‒‒‒‒‒ ‒‒‒‒‒‒‒‒‒‒ ‒‒‒‒‒‒‒‒‒‒ ‒‒‒‒‒‒‒‒‒‒ ‒‒‒‒‒‒‒‒‒‒ ‒‒‒‒‒‒‒‒‒‒ ‒‒‒‒‒‒‒‒‒‒ ‒‒‒‒‒‒‒‒‒‒ ‒‒‒‒‒‒‒‒‒‒ ‒‒‒‒‒‒‒‒‒‒ ‒‒‒‒‒‒‒‒‒‒ ‒‒‒‒‒‒‒‒‒‒ ‒‒‒‒‒‒‒‒‒‒ ‒‒‒‒‒‒‒‒‒‒ ‒‒‒‒‒‒‒‒‒‒ ‒‒‒‒‒‒‒‒‒‒ ‒‒‒‒‒‒‒‒‒‒ ‒‒‒‒‒‒‒‒‒‒ ‒‒‒‒‒‒‒‒‒‒ ‒‒‒‒‒‒‒‒‒‒ ‒‒‒‒‒‒‒‒‒‒ ‒‒‒‒‒‒‒‒‒‒ ‒‒‒‒‒‒‒‒‒‒ ‒‒‒‒‒‒‒‒‒‒ ‒‒‒‒‒‒‒‒‒‒ ‒‒‒‒‒‒‒‒‒‒ ‒‒‒‒‒‒‒‒‒‒ ‒‒‒‒‒‒‒‒‒‒ ‒‒‒‒‒‒‒‒‒‒ ‒‒‒‒‒‒‒‒‒‒ ‒‒‒‒‒‒‒‒‒‒ ‒‒‒‒‒‒‒‒‒‒ ‒‒‒‒‒‒‒‒‒‒ ‒‒‒‒‒‒‒‒‒‒ ‒‒‒‒‒‒‒‒‒‒ ‒‒‒‒‒‒‒‒‒‒ ‒‒‒‒‒‒‒‒‒‒ ‒‒‒‒‒‒‒‒‒‒ ‒‒‒‒‒‒‒‒‒‒ ‒‒‒‒‒‒‒‒‒‒ ‒‒‒‒‒‒‒‒‒‒ ‒‒‒‒‒‒‒‒‒‒ ‒‒‒‒‒‒‒‒‒‒ ‒‒‒‒‒‒‒‒‒‒ ‒‒‒‒‒‒‒‒‒‒ ‒‒‒‒‒‒‒‒‒‒ ‒‒‒‒‒‒‒‒‒‒ ‒‒‒‒‒‒‒‒‒‒ ‒‒‒‒‒‒‒‒‒‒ ‒‒‒‒‒‒‒‒‒‒ ‒‒‒‒‒‒‒‒‒‒ ‒‒‒‒‒‒‒‒‒‒ ‒‒‒‒‒‒‒‒‒‒ ‒‒‒‒‒‒‒‒‒‒ ‒‒‒‒‒‒‒‒‒‒ ‒‒‒‒‒‒‒‒‒‒ ‒‒‒‒‒‒‒‒‒‒ ‒‒‒‒‒‒‒‒‒‒ ‒‒‒‒‒‒‒‒‒‒ ‒‒‒‒‒‒‒‒‒‒ ‒‒‒‒‒‒‒‒‒‒ ‒‒‒‒‒‒‒‒‒‒ ‒‒‒‒‒‒‒‒‒‒ ‒‒‒‒‒‒‒‒‒‒ ‒‒‒‒‒‒‒‒‒‒ ‒‒‒‒‒‒‒‒‒‒ ‒‒‒‒‒‒‒‒‒‒ ‒‒‒‒‒‒‒‒‒‒ ‒‒‒‒‒‒‒‒‒‒ ‒‒‒‒‒‒‒‒‒‒ ‒‒‒‒‒‒‒‒‒‒ ‒‒‒‒‒‒‒‒‒‒ ‒‒‒‒‒‒‒‒‒‒ ‒‒‒‒‒‒‒‒‒‒ ‒‒‒‒‒‒‒‒‒‒ ‒‒‒‒‒‒‒‒‒‒ ‒‒‒‒‒‒‒‒‒‒ ‒‒‒‒‒‒‒‒‒‒ ‒‒‒‒‒‒‒‒‒‒ ‒‒‒‒‒‒‒‒‒‒ ‒‒‒‒‒‒‒‒‒‒ ‒‒‒‒‒‒‒‒‒‒ ‒‒‒‒‒‒‒‒‒‒ ‒‒‒‒‒‒‒‒‒‒ ‒‒‒‒‒‒‒‒‒‒ ‒‒‒‒‒‒‒‒‒‒ ‒‒‒‒‒‒‒‒‒‒ ‒‒‒‒‒‒‒‒‒‒ ‒‒‒‒‒‒‒‒‒‒ ‒‒‒‒‒‒‒‒‒‒ ‒‒‒‒‒‒‒‒‒‒ ‒‒‒‒‒‒‒‒‒‒ ‒‒‒‒‒‒‒‒‒‒ ‒‒‒‒‒‒‒‒‒‒ ‒‒‒‒‒‒‒‒‒‒ ‒‒‒‒‒‒‒‒‒‒ ‒‒‒‒‒‒‒‒‒‒ ‒‒‒‒‒‒‒‒‒‒ ‒‒‒‒‒‒‒‒‒‒ ‒‒‒‒‒‒‒‒‒‒ ‒‒‒‒‒‒‒‒‒‒ ‒‒‒‒‒‒‒‒‒‒ ‒‒‒‒‒‒‒‒‒‒ ‒‒‒‒‒‒‒‒‒‒ ‒‒‒‒‒‒‒‒‒‒ ‒‒‒‒‒‒‒‒‒‒ ‒‒‒‒‒‒‒‒‒‒ ‒‒‒‒‒‒‒‒‒‒ ‒‒‒‒‒‒‒‒‒‒ ‒‒‒‒‒‒‒‒‒‒ ‒‒‒‒‒‒‒‒‒‒ ‒‒‒‒‒‒‒‒‒‒ ‒‒‒‒‒‒‒‒‒‒ ‒‒‒‒‒‒‒‒‒‒ ‒‒‒‒‒‒‒‒‒‒ ‒‒‒‒‒‒‒‒‒‒ ‒‒‒‒‒‒‒‒‒‒ ‒‒‒‒‒‒‒‒‒‒ ‒‒‒‒‒‒‒‒‒‒ ‒‒‒‒‒‒‒‒‒‒ ‒‒‒‒‒‒‒‒‒‒ ‒‒‒‒‒‒‒‒‒‒ ‒‒‒‒‒‒‒‒‒‒ ‒‒‒‒‒‒‒‒‒‒ ‒‒‒‒‒‒‒‒‒‒ ‒‒‒‒‒‒‒‒‒‒ ‒‒‒‒‒‒‒‒‒‒ ‒‒‒‒‒‒‒‒‒‒ ‒‒‒‒‒‒‒‒‒‒ ‒‒‒‒‒‒‒‒‒‒ ‒‒‒‒‒‒‒‒‒‒ ‒‒‒‒‒‒‒‒‒‒ ‒‒‒‒‒‒‒‒‒‒ ‒‒‒‒‒‒‒‒‒‒ ‒‒‒‒‒‒‒‒‒‒ ‒‒‒‒‒‒‒‒‒‒ ‒‒‒‒‒‒‒‒‒‒ ‒‒‒‒‒‒‒‒‒‒ ‒‒‒‒‒‒‒‒‒‒ ‒‒‒‒‒‒‒‒‒‒ ‒‒‒‒‒‒‒‒‒‒ ‒‒‒‒‒‒‒‒‒‒ ‒‒‒‒‒‒‒‒‒‒ ‒‒‒‒‒‒‒‒‒‒ ‒‒‒‒‒‒‒‒‒‒ ‒‒‒‒‒‒‒‒‒‒ ‒‒‒‒‒‒‒‒‒‒ ‒‒‒‒‒‒‒‒‒‒ ‒‒‒‒‒‒‒‒‒‒ ‒‒‒‒‒‒‒‒‒‒ ‒‒‒‒‒‒‒‒‒‒ ‒‒‒‒‒‒‒‒‒‒ ‒‒‒‒‒‒‒‒‒‒ ‒‒‒‒‒‒‒‒‒‒ ‒‒‒‒‒‒‒‒‒‒ ‒‒‒‒‒‒‒‒‒‒ ‒‒‒‒‒‒‒‒‒‒ ‒‒‒‒‒‒‒‒‒‒ ‒‒‒‒‒‒‒‒‒‒ ‒‒‒‒‒‒‒‒‒‒ ‒‒‒‒‒‒‒‒‒‒ ‒‒‒‒‒‒‒‒‒‒ ‒‒‒‒‒‒‒‒‒‒ ‒‒‒‒‒‒‒‒‒‒ ‒‒‒‒‒‒‒‒‒‒ ‒‒‒‒‒‒‒‒‒‒ ‒‒‒‒‒‒‒‒‒‒ ‒‒‒‒‒‒‒‒‒‒ ‒‒‒‒‒‒‒‒‒‒ ‒‒‒‒‒‒‒‒‒‒ ‒‒‒‒‒‒‒‒‒‒ ‒‒‒‒‒‒‒‒‒‒ ‒‒‒‒‒‒‒‒‒‒ ‒‒‒‒‒‒‒‒‒‒ ‒‒‒‒‒‒‒‒‒‒ ‒‒‒‒‒‒‒‒‒‒ ‒‒‒‒‒‒‒‒‒‒ ‒‒‒‒‒‒‒‒‒‒ ‒‒‒‒‒‒‒‒‒‒ ‒‒‒‒‒‒‒‒‒‒ ‒‒‒‒‒‒‒‒
‒‒‒‒‒‒‒‒‒‒ ‒‒‒‒‒‒‒‒‒‒ ‒‒‒‒‒‒‒‒‒‒ ‒‒‒‒‒‒‒‒‒‒ ‒‒‒‒‒‒‒‒‒‒ ‒‒‒‒‒‒‒‒‒‒ ‒‒‒‒‒‒‒‒‒‒ ‒‒‒‒‒‒‒‒‒‒ ‒‒‒‒‒‒‒‒‒‒ ‒‒‒‒‒‒‒‒‒‒ ‒‒‒‒‒‒‒‒‒‒ ‒‒‒‒‒‒‒‒‒‒ ‒‒‒‒‒‒‒‒‒‒ ‒‒‒‒‒‒‒‒‒‒ ‒‒‒‒‒‒‒‒‒‒ ‒‒‒‒‒‒‒‒‒‒ ‒‒‒‒‒‒‒‒‒‒ ‒‒‒‒‒‒‒‒‒‒ ‒‒‒‒‒‒‒‒‒‒ ‒‒‒‒‒‒‒‒‒‒ ‒‒‒‒‒‒‒‒‒‒ ‒‒‒‒‒‒‒‒‒‒ ‒‒‒‒‒‒‒‒‒‒ ‒‒‒‒‒‒‒‒‒‒ ‒‒‒‒‒‒‒‒‒‒ ‒‒‒‒‒‒‒‒‒‒ ‒‒‒‒‒‒‒‒‒‒ ‒‒‒‒‒‒‒‒‒‒ ‒‒‒‒‒‒‒‒‒‒ ‒‒‒‒‒‒‒‒‒‒ ‒‒‒‒‒‒‒‒‒‒ ‒‒‒‒‒‒‒‒‒‒ ‒‒‒‒‒‒‒‒‒‒ ‒‒‒‒‒‒‒‒‒‒ ‒‒‒‒‒‒‒‒‒‒ ‒‒‒‒‒‒‒‒‒‒ ‒‒‒‒‒‒‒‒‒‒ ‒‒‒‒‒‒‒‒‒‒ ‒‒‒‒‒‒‒‒‒‒ ‒‒‒‒‒‒‒‒‒‒ ‒‒‒‒‒‒‒‒‒‒ ‒‒‒‒‒‒‒‒‒‒ ‒‒‒‒‒‒‒‒‒‒ ‒‒‒‒‒‒‒‒‒‒ ‒‒‒‒‒‒‒‒‒‒ ‒‒‒‒‒‒‒‒‒‒ ‒‒‒‒‒‒‒‒‒‒ ‒‒‒‒‒‒‒‒‒‒ ‒‒‒‒‒‒‒‒‒‒ ‒‒‒‒‒‒‒‒‒‒ ‒‒‒‒‒‒‒‒‒‒ ‒‒‒‒‒‒‒‒‒‒ ‒‒‒‒‒‒‒‒‒‒ ‒‒‒‒‒‒‒‒‒‒ ‒‒‒‒‒‒‒‒‒‒ ‒‒‒‒‒‒‒‒‒‒ ‒‒‒‒‒‒‒‒‒‒ ‒‒‒‒‒‒‒‒‒‒ ‒‒‒‒‒‒‒‒‒‒ ‒‒‒‒‒‒‒‒‒‒ ‒‒‒‒‒‒‒‒‒‒ ‒‒‒‒‒‒‒‒‒‒ ‒‒‒‒‒‒‒‒‒‒ ‒‒‒‒‒‒‒‒‒‒ ‒‒‒‒‒‒‒‒‒‒ ‒‒‒‒‒‒‒‒‒‒ ‒‒‒‒‒‒‒‒‒‒ ‒‒‒‒‒‒‒‒‒‒ ‒‒‒‒‒‒‒‒‒‒ ‒‒‒‒‒‒‒‒‒‒ ‒‒‒‒‒‒‒‒‒‒ ‒‒‒‒‒‒‒‒‒‒ ‒‒‒‒‒‒‒‒‒‒ ‒‒‒‒‒‒‒‒‒‒ ‒‒‒‒‒‒‒‒‒‒ ‒‒‒‒‒‒‒‒‒‒ ‒‒‒‒‒‒‒‒‒‒ ‒‒‒‒‒‒‒‒‒‒ ‒‒‒‒‒‒‒‒‒‒ ‒‒‒‒‒‒‒‒‒‒ ‒‒‒‒‒‒‒‒‒‒ ‒‒‒‒‒‒‒‒‒‒ ‒‒‒‒‒‒‒‒‒‒ ‒‒‒‒‒‒‒‒‒‒ ‒‒‒‒‒‒‒‒‒‒ ‒‒‒‒‒‒‒‒‒‒ ‒‒‒‒‒‒‒‒‒‒ ‒‒‒‒‒‒‒‒‒‒ ‒‒‒‒‒‒‒‒‒‒ ‒‒‒‒‒‒‒‒‒‒ ‒‒‒‒‒‒‒‒‒‒ ‒‒‒‒‒‒‒‒‒‒ ‒‒‒‒‒‒‒‒‒‒ ‒‒‒‒‒‒‒‒‒‒ ‒‒‒‒‒‒‒‒‒‒ ‒‒‒‒‒‒‒‒‒‒ ‒‒‒‒‒‒‒‒‒‒ ‒‒‒‒‒‒‒‒‒‒ ‒‒‒‒‒‒‒‒‒‒ ‒‒‒‒‒‒‒‒‒‒ ‒‒‒‒‒‒‒‒‒‒ ‒‒‒‒‒‒‒‒‒‒ ‒‒‒‒‒‒‒‒‒‒ ‒‒‒‒‒‒‒‒‒‒ ‒‒‒‒‒‒‒‒‒‒ ‒‒‒‒‒‒‒‒‒‒ ‒‒‒‒‒‒‒‒‒‒ ‒‒‒‒‒‒‒‒‒‒ ‒‒‒‒‒‒‒‒‒‒ ‒‒‒‒‒‒‒‒‒‒ ‒‒‒‒‒‒‒‒‒‒ ‒‒‒‒‒‒‒‒‒‒ ‒‒‒‒‒‒‒‒‒‒ ‒‒‒‒‒‒‒‒‒‒ ‒‒‒‒‒‒‒‒‒‒ ‒‒‒‒‒‒‒‒‒‒ ‒‒‒‒‒‒‒‒‒‒ ‒‒‒‒‒‒‒‒‒‒ ‒‒‒‒‒‒‒‒‒‒ ‒‒‒‒‒‒‒‒‒‒ ‒‒‒‒‒‒‒‒‒‒ ‒‒‒‒‒‒‒‒‒‒ ‒‒‒‒‒‒‒‒‒‒ ‒‒‒‒‒‒‒‒‒‒ ‒‒‒‒‒‒‒‒‒‒ ‒‒‒‒‒‒‒‒‒‒ ‒‒‒‒‒‒‒‒‒‒ ‒‒‒‒‒‒‒‒‒‒ ‒‒‒‒‒‒‒‒‒‒ ‒‒‒‒‒‒‒‒‒‒ ‒‒‒‒‒‒‒‒‒‒ ‒‒‒‒‒‒‒‒‒‒ ‒‒‒‒‒‒‒‒‒‒ ‒‒‒‒‒‒‒‒‒‒ ‒‒‒‒‒‒‒‒‒‒ ‒‒‒‒‒‒‒‒‒‒ ‒‒‒‒‒‒‒‒‒‒ ‒‒‒‒‒‒‒‒‒‒ ‒‒‒‒‒‒‒‒‒‒ ‒‒‒‒‒‒‒‒‒‒ ‒‒‒‒‒‒‒‒‒‒ ‒‒‒‒‒‒‒‒‒‒ ‒‒‒‒‒‒‒‒‒‒ ‒‒‒‒‒‒‒‒‒‒ ‒‒‒‒‒‒‒‒‒‒ ‒‒‒‒‒‒‒‒‒‒ ‒‒‒‒‒‒‒‒‒‒ ‒‒‒‒‒‒‒‒‒‒ ‒‒‒‒‒‒‒‒‒‒ ‒‒‒‒‒‒‒‒‒‒ ‒‒‒‒‒‒‒‒‒‒ ‒‒‒‒‒‒‒‒‒‒ ‒‒‒‒‒‒‒‒‒‒ ‒‒‒‒‒‒‒‒‒‒ ‒‒‒‒‒‒‒‒‒‒ ‒‒‒‒‒‒‒‒‒‒ ‒‒‒‒‒‒‒‒‒‒ ‒‒‒‒‒‒‒‒‒‒ ‒‒‒‒‒‒‒‒‒‒ ‒‒‒‒‒‒‒‒‒‒ ‒‒‒‒‒‒‒‒‒‒ ‒‒‒‒‒‒‒‒‒‒ ‒‒‒‒‒‒‒‒‒‒ ‒‒‒‒‒‒‒‒‒‒ ‒‒‒‒‒‒‒‒‒‒ ‒‒‒‒‒‒‒‒‒‒ ‒‒‒‒‒‒‒‒‒‒ ‒‒‒‒‒‒‒‒‒‒ ‒‒‒‒‒‒‒‒‒‒ ‒‒‒‒‒‒‒‒‒‒ ‒‒‒‒‒‒‒‒‒‒ ‒‒‒‒‒‒‒‒‒‒ ‒‒‒‒‒‒‒‒‒‒ ‒‒‒‒‒‒‒‒‒‒ ‒‒‒‒‒‒‒‒‒‒ ‒‒‒‒‒‒‒‒‒‒ ‒‒‒‒‒‒‒‒‒‒ ‒‒‒‒‒‒‒‒‒‒ ‒‒‒‒‒‒‒‒‒‒ ‒‒‒‒‒‒‒‒‒‒ ‒‒‒‒‒‒‒‒‒‒ ‒‒‒‒‒‒‒‒‒‒ ‒‒‒‒‒‒‒‒‒‒ ‒‒‒‒‒‒‒‒‒‒ ‒‒‒‒‒‒‒‒‒‒ ‒‒‒‒‒‒‒‒‒‒ ‒‒‒‒‒‒‒‒‒‒ ‒‒‒‒‒‒‒‒‒‒ ‒‒‒‒‒‒‒‒‒‒ ‒‒‒‒‒‒‒‒‒‒ ‒‒‒‒‒‒‒‒‒‒ ‒‒‒‒‒‒‒‒‒‒ ‒‒‒‒‒‒‒‒‒‒ ‒‒‒‒‒‒‒‒‒‒ ‒‒‒‒‒‒‒‒‒‒ ‒‒‒‒‒‒‒‒‒‒ ‒‒‒‒‒‒‒‒‒‒ ‒‒‒‒‒‒‒‒‒‒ ‒‒‒‒‒‒‒‒‒‒ ‒‒‒‒‒‒‒‒‒‒ ‒‒‒‒‒‒‒‒‒‒ ‒‒‒‒‒‒‒‒‒‒ ‒‒‒‒‒‒‒‒‒‒ ‒‒‒‒‒‒‒‒‒‒ ‒‒‒‒‒‒‒‒‒‒ ‒‒‒‒‒‒‒‒‒‒ ‒‒‒‒‒‒‒‒‒‒ ‒‒‒‒‒‒‒‒‒‒ ‒‒‒‒‒‒‒‒‒‒ ‒‒‒‒‒‒‒‒‒‒ ‒‒‒‒‒‒‒‒‒‒ ‒‒‒‒‒‒‒‒‒‒ ‒‒‒‒‒‒‒‒‒‒ ‒‒‒‒‒‒‒‒‒‒ ‒‒‒‒‒‒‒‒‒‒ ‒‒‒‒‒‒‒‒‒‒ ‒‒‒‒‒‒‒‒‒‒ ‒‒‒‒‒‒‒‒‒‒ ‒‒‒‒‒‒‒‒‒‒ ‒‒‒‒‒‒‒‒‒‒ ‒‒‒‒‒‒‒‒‒‒ ‒‒‒‒‒‒‒‒‒‒ ‒‒‒‒‒‒‒‒‒‒ ‒‒‒‒‒‒‒‒‒‒ ‒‒‒‒‒‒‒‒‒‒ ‒‒‒‒‒‒‒‒‒‒ ‒‒‒‒‒‒‒‒‒‒ ‒‒‒‒‒‒‒‒‒‒ ‒‒‒‒‒‒‒‒‒‒ ‒‒‒‒‒‒‒‒‒‒ ‒‒‒‒‒‒‒‒‒‒ ‒‒‒‒‒‒‒‒‒‒ ‒‒‒‒‒‒‒‒‒‒ ‒‒‒‒‒‒‒‒‒‒ ‒‒‒‒‒‒‒‒‒‒ ‒‒‒‒‒‒‒‒‒‒ ‒‒‒‒‒‒‒‒‒‒ ‒‒‒‒‒‒‒‒‒‒ ‒‒‒‒‒‒‒‒‒‒ ‒‒‒‒‒‒‒‒‒‒ ‒‒‒‒‒‒‒‒‒‒ ‒‒‒‒‒‒‒‒‒‒ ‒‒‒‒‒‒‒‒‒‒ ‒‒‒‒‒‒‒‒‒‒ ‒‒‒‒‒‒‒‒‒‒ ‒‒‒‒‒
‒‒‒‒‒‒‒‒ ‒‒‒‒‒‒‒‒‒‒ ‒‒‒‒‒‒‒‒‒‒ ‒‒‒‒‒‒‒‒‒‒ ‒‒‒‒‒‒‒‒‒‒ ‒‒‒‒‒‒‒‒‒‒ ‒‒‒‒‒‒‒‒‒‒ ‒‒‒‒‒‒‒‒‒‒ ‒‒‒‒‒‒‒‒‒‒ ‒‒‒‒‒‒‒‒‒‒ ‒‒‒‒‒‒‒‒‒‒ ‒‒‒‒‒‒‒‒‒‒ ‒‒‒‒‒‒‒‒‒‒ ‒‒‒‒‒‒‒‒‒‒ ‒‒‒‒‒‒‒‒‒‒ ‒‒‒‒‒‒‒‒‒‒ ‒‒‒‒‒‒‒‒‒‒ ‒‒‒‒‒‒‒‒‒‒ ‒‒‒‒‒‒‒‒‒‒ ‒‒‒‒‒‒‒‒‒‒ ‒‒‒‒‒‒‒‒‒‒ ‒‒‒‒‒‒‒‒‒‒ ‒‒‒‒‒‒‒‒‒‒ ‒‒‒‒‒‒‒‒‒‒ ‒‒‒‒‒‒‒‒‒‒ ‒‒‒‒‒‒‒‒‒‒ ‒‒‒‒‒‒‒‒‒‒ ‒‒‒‒‒‒‒‒‒‒ ‒‒‒‒‒‒‒‒‒‒ ‒‒‒‒‒‒‒‒‒‒ ‒‒‒‒‒‒‒‒‒‒ ‒‒‒‒‒‒‒‒‒‒ ‒‒‒‒‒‒‒‒‒‒ ‒‒‒‒‒‒‒‒‒‒ ‒‒‒‒‒‒‒‒‒‒ ‒‒‒‒‒‒‒‒‒‒ ‒‒‒‒‒‒‒‒‒‒ ‒‒‒‒‒‒‒‒‒‒ ‒‒‒‒‒‒‒‒‒‒ ‒‒‒‒‒‒‒‒‒‒ ‒‒‒‒‒‒‒‒‒‒ ‒‒‒‒‒‒‒‒‒‒ ‒‒‒‒‒‒‒‒‒‒ ‒‒‒‒‒‒‒‒‒‒ ‒‒‒‒‒‒‒‒‒‒ ‒‒‒‒‒‒‒‒‒‒ ‒‒‒‒‒‒‒‒‒‒ ‒‒‒‒‒‒‒‒‒‒ ‒‒‒‒‒‒‒‒‒‒ ‒‒‒‒‒‒‒‒‒‒ ‒‒‒‒‒‒‒‒‒‒ ‒‒‒‒‒‒‒‒‒‒ ‒‒‒‒‒‒‒‒‒‒ ‒‒‒‒‒‒‒‒‒‒ ‒‒‒‒‒‒‒‒‒‒ ‒‒‒‒‒‒‒‒‒‒ ‒‒‒‒‒‒‒‒‒‒ ‒‒‒‒‒‒‒‒‒‒ ‒‒‒‒‒‒‒‒‒‒ ‒‒‒‒‒‒‒‒‒‒ ‒‒‒‒‒‒‒‒‒‒ ‒‒‒‒‒‒‒‒‒‒ ‒‒‒‒‒‒‒‒‒‒ ‒‒‒‒‒‒‒‒‒‒ ‒‒‒‒‒‒‒‒‒‒ ‒‒‒‒‒‒‒‒‒‒ ‒‒‒‒‒‒‒‒‒‒ ‒‒‒‒‒‒‒‒‒‒ ‒‒‒‒‒‒‒‒‒‒ ‒‒‒‒‒‒‒‒‒‒ ‒‒‒‒‒‒‒‒‒‒ ‒‒‒‒‒‒‒‒‒‒ ‒‒‒‒‒‒‒‒‒‒ ‒‒‒‒‒‒‒‒‒‒ ‒‒‒‒‒‒‒‒‒‒ ‒‒‒‒‒‒‒‒‒‒ ‒‒‒‒‒‒‒‒‒‒ ‒‒‒‒‒‒‒‒‒‒ ‒‒‒‒‒‒‒‒‒‒ ‒‒‒‒‒‒‒‒‒‒ ‒‒‒‒‒‒‒‒‒‒ ‒‒‒‒‒‒‒‒‒‒ ‒‒‒‒‒‒‒‒‒‒ ‒‒‒‒‒‒‒‒‒‒ ‒‒‒‒‒‒‒‒‒‒ ‒‒‒‒‒‒‒‒‒‒ ‒‒‒‒‒‒‒‒‒‒ ‒‒‒‒‒‒‒‒‒‒ ‒‒‒‒‒‒‒‒‒‒ ‒‒‒‒‒‒‒‒‒‒ ‒‒‒‒‒‒‒‒‒‒ ‒‒‒‒‒‒‒‒‒‒ ‒‒‒‒‒‒‒‒‒‒ ‒‒‒‒‒‒‒‒‒‒ ‒‒‒‒‒‒‒‒‒‒ ‒‒‒‒‒‒‒‒‒‒ ‒‒‒‒‒‒‒‒‒‒ ‒‒‒‒‒‒‒‒‒‒ ‒‒‒‒‒‒‒‒‒‒ ‒‒‒‒‒‒‒‒‒‒ ‒‒‒‒‒‒‒‒‒‒ ‒‒‒‒‒‒‒‒‒‒ ‒‒‒‒‒‒‒‒‒‒ ‒‒‒‒‒‒‒‒‒‒ ‒‒‒‒‒‒‒‒‒‒ ‒‒‒‒‒‒‒‒‒‒ ‒‒‒‒‒‒‒‒‒‒ ‒‒‒‒‒‒‒‒‒‒ ‒‒‒‒‒‒‒‒‒‒ ‒‒‒‒‒‒‒‒‒‒ ‒‒‒‒‒‒‒‒‒‒ ‒‒‒‒‒‒‒‒‒‒ ‒‒‒‒‒‒‒‒‒‒ ‒‒‒‒‒‒‒‒‒‒ ‒‒‒‒‒‒‒‒‒‒ ‒‒‒‒‒‒‒‒‒‒ ‒‒‒‒‒‒‒‒‒‒ ‒‒‒‒‒‒‒‒‒‒ ‒‒‒‒‒‒‒‒‒‒ ‒‒‒‒‒‒‒‒‒‒ ‒‒‒‒‒‒‒‒‒‒ ‒‒‒‒‒‒‒‒‒‒ ‒‒‒‒‒‒‒‒‒‒ ‒‒‒‒‒‒‒‒‒‒ ‒‒‒‒‒‒‒‒‒‒ ‒‒‒‒‒‒‒‒‒‒ ‒‒‒‒‒‒‒‒‒‒ ‒‒‒‒‒‒‒‒‒‒ ‒‒‒‒‒‒‒‒‒‒ ‒‒‒‒‒‒‒‒‒‒ ‒‒‒‒‒‒‒‒‒‒ ‒‒‒‒‒‒‒‒‒‒ ‒‒‒‒‒‒‒‒‒‒ ‒‒‒‒‒‒‒‒‒‒ ‒‒‒‒‒‒‒‒‒‒ ‒‒‒‒‒‒‒‒‒‒ ‒‒‒‒‒‒‒‒‒‒ ‒‒‒‒‒‒‒‒‒‒ ‒‒‒‒‒‒‒‒‒‒ ‒‒‒‒‒‒‒‒‒‒ ‒‒‒‒‒‒‒‒‒‒ ‒‒‒‒‒‒‒‒‒‒ ‒‒‒‒‒‒‒‒‒‒ ‒‒‒‒‒‒‒‒‒‒ ‒‒‒‒‒‒‒‒‒‒ ‒‒‒‒‒‒‒‒‒‒ ‒‒‒‒‒‒‒‒‒‒ ‒‒‒‒‒‒‒‒‒‒ ‒‒‒‒‒‒‒‒‒‒ ‒‒‒‒‒‒‒‒‒‒ ‒‒‒‒‒‒‒‒‒‒ ‒‒‒‒‒‒‒‒‒‒ ‒‒‒‒‒‒‒‒‒‒ ‒‒‒‒‒‒‒‒‒‒ ‒‒‒‒‒‒‒‒‒‒ ‒‒‒‒‒‒‒‒‒‒ ‒‒‒‒‒‒‒‒‒‒ ‒‒‒‒‒‒‒‒‒‒ ‒‒‒‒‒‒‒‒‒‒ ‒‒‒‒‒‒‒‒‒‒ ‒‒‒‒‒‒‒‒‒‒ ‒‒‒‒‒‒‒‒‒‒ ‒‒‒‒‒‒‒‒‒‒ ‒‒‒‒‒‒‒‒‒‒ ‒‒‒‒‒‒‒‒‒‒ ‒‒‒‒‒‒‒‒‒‒ ‒‒‒‒‒‒‒‒‒‒ ‒‒‒‒‒‒‒‒‒‒ ‒‒‒‒‒‒‒‒‒‒ ‒‒‒‒‒‒‒‒‒‒ ‒‒‒‒‒‒‒‒‒‒ ‒‒‒‒‒‒‒‒‒‒ ‒‒‒‒‒‒‒‒‒‒ ‒‒‒‒‒‒‒‒‒‒ ‒‒‒‒‒‒‒‒‒‒ ‒‒‒‒‒‒‒‒‒‒ ‒‒‒‒‒‒‒‒‒‒ ‒‒‒‒‒‒‒‒‒‒ ‒‒‒‒‒‒‒‒‒‒ ‒‒‒‒‒‒‒‒‒‒ ‒‒‒‒‒‒‒‒‒‒ ‒‒‒‒‒‒‒‒‒‒ ‒‒‒‒‒‒‒‒‒‒ ‒‒‒‒‒‒‒‒‒‒ ‒‒‒‒‒‒‒‒‒‒ ‒‒‒‒‒‒‒‒‒‒ ‒‒‒‒‒‒‒‒‒‒ ‒‒‒‒‒‒‒‒‒‒ ‒‒‒‒‒‒‒‒‒‒ ‒‒‒‒‒‒‒‒‒‒ ‒‒‒‒‒‒‒‒‒‒ ‒‒‒‒‒‒‒‒‒‒ ‒‒‒‒‒‒‒‒‒‒ ‒‒‒‒‒‒‒‒‒‒ ‒‒‒‒‒‒‒‒‒‒ ‒‒‒‒‒‒‒‒‒‒ ‒‒‒‒‒‒‒‒‒‒ ‒‒‒‒‒‒‒‒‒‒ ‒‒‒‒‒‒‒‒‒‒ ‒‒‒‒‒‒‒‒‒‒ ‒‒‒‒‒‒‒‒‒‒ ‒‒‒‒‒‒‒‒‒‒ ‒‒‒‒‒‒‒‒‒‒ ‒‒‒‒‒‒‒‒‒‒ ‒‒‒‒‒‒‒‒‒‒ ‒‒‒‒‒‒‒‒‒‒ ‒‒‒‒‒‒‒‒‒‒ ‒‒‒‒‒‒‒‒‒‒ ‒‒‒‒‒‒‒‒‒‒ ‒‒‒
‒‒‒‒‒‒ ‒‒‒‒‒‒‒‒‒‒ ‒‒‒‒‒‒‒‒‒‒ ‒‒‒‒‒‒‒‒‒‒ ‒‒‒‒‒‒‒‒‒‒ ‒‒‒‒‒‒‒‒‒‒ ‒‒‒‒‒‒‒‒‒‒ ‒‒‒‒‒‒‒‒‒‒ ‒‒‒‒‒‒‒‒‒‒ ‒‒‒‒‒‒‒‒‒‒ ‒‒‒‒‒‒‒‒‒‒ ‒‒‒‒‒‒‒‒‒‒ ‒‒‒‒‒‒‒‒‒‒ ‒‒‒‒‒‒‒‒‒‒ ‒‒‒‒‒‒‒‒‒‒ ‒‒‒‒‒‒‒‒‒‒ ‒‒‒‒‒‒‒‒‒‒ ‒‒‒‒‒‒‒‒‒‒ ‒‒‒‒‒‒‒‒‒‒ ‒‒‒‒‒‒‒‒‒‒ ‒‒‒‒‒‒‒‒‒‒ ‒‒‒‒‒‒‒‒‒‒ ‒‒‒‒‒‒‒‒‒‒ ‒‒‒‒‒‒‒‒‒‒ ‒‒‒‒‒‒‒‒‒‒ ‒‒‒‒‒‒‒‒‒‒ ‒‒‒‒‒‒‒‒‒‒ ‒‒‒‒‒‒‒‒‒‒ ‒‒‒‒‒‒‒‒‒‒ ‒‒‒‒‒‒‒‒‒‒ ‒‒‒‒‒‒‒‒‒‒ ‒‒‒‒‒‒‒‒‒‒ ‒‒‒‒‒‒‒‒‒‒ ‒‒‒‒‒‒‒‒‒‒ ‒‒‒‒‒‒‒‒‒‒ ‒‒‒‒‒‒‒‒‒‒ ‒‒‒‒‒‒‒‒‒‒ ‒‒‒‒‒‒‒‒‒‒ ‒‒‒‒‒‒‒‒‒‒ ‒‒‒‒‒‒‒‒‒‒ ‒‒‒‒‒‒‒‒‒‒ ‒‒‒‒‒‒‒‒‒‒ ‒‒‒‒‒‒‒‒‒‒ ‒‒‒‒‒‒‒‒‒‒ ‒‒‒‒‒‒‒‒‒‒ ‒‒‒‒‒‒‒‒‒‒ ‒‒‒‒‒‒‒‒‒‒ ‒‒‒‒‒‒‒‒‒‒ ‒‒‒‒‒‒‒‒‒‒ ‒‒‒‒‒‒‒‒‒‒ ‒‒‒‒‒‒‒‒‒‒ ‒‒‒‒‒‒‒‒‒‒ ‒‒‒‒‒‒‒‒‒‒ ‒‒‒‒‒‒‒‒‒‒ ‒‒‒‒‒‒‒‒‒‒ ‒‒‒‒‒‒‒‒‒‒ ‒‒‒‒‒‒‒‒‒‒ ‒‒‒‒‒‒‒‒‒‒ ‒‒‒‒‒‒‒‒‒‒ ‒‒‒‒‒‒‒‒‒‒ ‒‒‒‒‒‒‒‒‒‒ ‒‒‒‒‒‒‒‒‒‒ ‒‒‒‒‒‒‒‒‒‒ ‒‒‒‒‒‒‒‒‒‒ ‒‒‒‒‒‒‒‒‒‒ ‒‒‒‒‒‒‒‒‒‒ ‒‒‒‒‒‒‒‒‒‒ ‒‒‒‒‒‒‒‒‒‒ ‒‒‒‒‒‒‒‒‒‒ ‒‒‒‒‒‒‒‒‒‒ ‒‒‒‒‒‒‒‒‒‒ ‒‒‒‒‒‒‒‒‒‒ ‒‒‒‒‒‒‒‒‒‒ ‒‒‒‒‒‒‒‒‒‒ ‒‒‒‒‒‒‒‒‒‒ ‒‒‒‒‒‒‒‒‒‒ ‒‒‒‒‒‒‒‒‒‒ ‒‒‒‒‒‒‒‒‒‒ ‒‒‒‒‒‒‒‒‒‒ ‒‒‒‒‒‒‒‒‒‒ ‒‒‒‒‒‒‒‒‒‒ ‒‒‒‒‒‒‒‒‒‒ ‒‒‒‒‒‒‒‒‒‒ ‒‒‒‒‒‒‒‒‒‒ ‒‒‒‒‒‒‒‒‒‒ ‒‒‒‒‒‒‒‒‒‒ ‒‒‒‒‒‒‒‒‒‒ ‒‒‒‒‒‒‒‒‒‒ ‒‒‒‒‒‒‒‒‒‒ ‒‒‒‒‒‒‒‒‒‒ ‒‒‒‒‒‒‒‒‒‒ ‒‒‒‒‒‒‒‒‒‒ ‒‒‒‒‒‒‒‒‒‒ ‒‒‒‒‒‒‒‒‒‒ ‒‒‒‒‒‒‒‒‒‒ ‒‒‒‒‒‒‒‒‒‒ ‒‒‒‒‒‒‒‒‒‒ ‒‒‒‒‒‒‒‒‒‒ ‒‒‒‒‒‒‒‒‒‒ ‒‒‒‒‒‒‒‒‒‒ ‒‒‒‒‒‒‒‒‒‒ ‒‒‒‒‒‒‒‒‒‒ ‒‒‒‒‒‒‒‒‒‒ ‒‒‒‒‒‒‒‒‒‒ ‒‒‒‒‒‒‒‒‒‒ ‒‒‒‒‒‒‒‒‒‒ ‒‒‒‒‒‒‒‒‒‒ ‒‒‒‒‒‒‒‒‒‒ ‒‒‒‒‒‒‒‒‒‒ ‒‒‒‒‒‒‒‒‒‒ ‒‒‒‒‒‒‒‒‒‒ ‒‒‒‒‒‒‒‒‒‒ ‒‒‒‒‒‒‒‒‒‒ ‒‒‒‒‒‒‒‒‒‒ ‒‒‒‒‒‒‒‒‒‒ ‒‒‒‒‒‒‒‒‒‒ ‒‒‒‒‒‒‒‒‒‒ ‒‒‒‒‒‒‒‒‒‒ ‒‒‒‒‒‒‒‒‒‒ ‒‒‒‒‒‒‒‒‒‒ ‒‒‒‒‒‒‒‒‒‒ ‒‒‒‒‒‒‒‒‒‒ ‒‒‒‒‒‒‒‒‒‒ ‒‒‒‒‒‒‒‒‒‒ ‒‒‒‒‒‒‒‒‒‒ ‒‒‒‒‒‒‒‒‒‒ ‒‒‒‒‒‒‒‒‒‒ ‒‒‒‒‒‒‒‒‒‒ ‒‒‒‒‒‒‒‒‒‒ ‒‒‒‒‒‒‒‒‒‒ ‒‒‒‒‒‒‒‒‒‒ ‒‒‒‒‒‒‒‒‒‒ ‒‒‒‒‒‒‒‒‒‒ ‒‒‒‒‒‒‒‒‒‒ ‒‒‒‒‒‒‒‒‒‒ ‒‒‒‒‒‒‒‒‒‒ ‒‒‒‒‒‒‒‒‒‒ ‒‒‒‒‒‒‒‒‒‒ ‒‒‒‒‒‒‒‒‒‒ ‒‒‒‒‒‒‒‒‒‒ ‒‒‒‒‒‒‒‒‒‒ ‒‒‒‒‒‒‒‒‒‒ ‒‒‒‒‒‒‒‒‒‒ ‒‒‒‒‒‒‒‒‒‒ ‒‒‒‒‒‒‒‒‒‒ ‒‒‒‒‒‒‒‒‒‒ ‒‒‒‒‒‒‒‒‒‒ ‒‒‒‒‒‒‒‒‒‒ ‒‒‒‒‒‒‒‒‒‒ ‒‒‒‒‒‒‒‒‒‒ ‒‒‒‒‒‒‒‒‒‒ ‒‒‒‒‒‒‒‒‒‒ ‒‒‒‒‒‒‒‒‒‒ ‒‒‒‒‒‒‒‒‒‒ ‒‒‒‒‒‒‒‒‒‒ ‒‒‒‒‒‒‒‒‒‒ ‒‒‒‒‒‒‒‒‒‒ ‒‒‒‒‒‒‒‒‒‒ ‒‒‒‒‒‒‒‒‒‒ ‒‒‒‒‒‒‒‒‒‒ ‒‒‒‒‒‒‒‒‒‒ ‒‒‒‒‒‒‒‒‒‒ ‒‒‒‒‒‒‒‒‒‒ ‒‒‒‒‒‒‒‒‒‒ ‒‒‒‒‒‒‒‒‒‒ ‒‒‒‒‒‒‒‒‒‒ ‒‒‒‒‒‒‒‒‒‒ ‒‒‒‒‒‒‒‒‒‒ ‒‒‒‒‒‒‒‒‒‒ ‒‒‒‒‒‒‒‒‒‒ ‒‒‒‒‒‒‒‒‒‒ ‒‒‒‒‒‒‒‒‒‒ ‒‒‒‒‒‒‒‒‒‒ ‒‒‒‒‒‒‒‒‒‒ ‒‒‒‒‒‒‒‒‒‒ ‒‒‒‒‒‒‒‒‒‒ ‒‒‒‒‒‒‒‒‒‒ ‒‒‒‒‒‒‒‒‒‒ ‒‒‒‒‒‒‒‒‒‒ ‒‒‒‒‒‒‒‒‒‒ ‒‒‒‒‒‒‒‒‒‒ ‒‒‒‒‒‒‒‒‒‒ ‒‒‒‒‒‒‒‒‒‒ ‒‒‒‒‒‒‒‒‒‒ ‒‒‒‒‒‒‒‒‒‒ ‒‒‒‒‒‒‒‒‒‒ ‒‒‒‒‒‒‒‒‒‒ ‒‒‒‒‒‒‒‒‒‒ ‒‒‒‒‒‒‒‒‒‒ ‒‒‒‒‒‒‒‒‒‒ ‒‒‒‒‒‒‒‒‒‒ ‒‒‒‒‒‒‒‒‒‒ ‒‒‒‒‒‒‒‒‒‒ ‒‒‒‒‒‒‒‒‒‒ ‒‒‒‒‒‒‒‒‒‒ ‒‒‒‒‒‒‒‒‒‒ ‒‒‒‒‒‒‒‒‒‒ ‒‒‒‒‒‒‒‒‒‒ ‒‒‒‒‒‒‒‒‒‒ ‒‒‒‒‒‒‒‒‒‒ ‒‒‒‒
‒‒‒‒ ‒‒‒‒‒‒‒‒‒‒ ‒‒‒‒‒‒‒‒‒‒ ‒‒‒‒‒‒‒‒‒‒ ‒‒‒‒‒‒‒‒‒‒ ‒‒‒‒‒‒‒‒‒‒ ‒‒‒‒‒‒‒‒‒‒ ‒‒‒‒‒‒‒‒‒‒ ‒‒‒‒‒‒‒‒‒‒ ‒‒‒‒‒‒‒‒‒‒ ‒‒‒‒‒‒‒‒‒‒ ‒‒‒‒‒‒‒‒‒‒ ‒‒‒‒‒‒‒‒‒‒ ‒‒‒‒‒‒‒‒‒‒ ‒‒‒‒‒‒‒‒‒‒ ‒‒‒‒‒‒‒‒‒‒ ‒‒‒‒‒‒‒‒‒‒ ‒‒‒‒‒‒‒‒‒‒ ‒‒‒‒‒‒‒‒‒‒ ‒‒‒‒‒‒‒‒‒‒ ‒‒‒‒‒‒‒‒‒‒ ‒‒‒‒‒‒‒‒‒‒ ‒‒‒‒‒‒‒‒‒‒ ‒‒‒‒‒‒‒‒‒‒ ‒‒‒‒‒‒‒‒‒‒ ‒‒‒‒‒‒‒‒‒‒ ‒‒‒‒‒‒‒‒‒‒ ‒‒‒‒‒‒‒‒‒‒ ‒‒‒‒‒‒‒‒‒‒ ‒‒‒‒‒‒‒‒‒‒ ‒‒‒‒‒‒‒‒‒‒ ‒‒‒‒‒‒‒‒‒‒ ‒‒‒‒‒‒‒‒‒‒ ‒‒‒‒‒‒‒‒‒‒ ‒‒‒‒‒‒‒‒‒‒ ‒‒‒‒‒‒‒‒‒‒ ‒‒‒‒‒‒‒‒‒‒ ‒‒‒‒‒‒‒‒‒‒ ‒‒‒‒‒‒‒‒‒‒ ‒‒‒‒‒‒‒‒‒‒ ‒‒‒‒‒‒‒‒‒‒ ‒‒‒‒‒‒‒‒‒‒ ‒‒‒‒‒‒‒‒‒‒ ‒‒‒‒‒‒‒‒‒‒ ‒‒‒‒‒‒‒‒‒‒ ‒‒‒‒‒‒‒‒‒‒ ‒‒‒‒‒‒‒‒‒‒ ‒‒‒‒‒‒‒‒‒‒ ‒‒‒‒‒‒‒‒‒‒ ‒‒‒‒‒‒‒‒‒‒ ‒‒‒‒‒‒‒‒‒‒ ‒‒‒‒‒‒‒‒‒‒ ‒‒‒‒‒‒‒‒‒‒ ‒‒‒‒‒‒‒‒‒‒ ‒‒‒‒‒‒‒‒‒‒ ‒‒‒‒‒‒‒‒‒‒ ‒‒‒‒‒‒‒‒‒‒ ‒‒‒‒‒‒‒‒‒‒ ‒‒‒‒‒‒‒‒‒‒ ‒‒‒‒‒‒‒‒‒‒ ‒‒‒‒‒‒‒‒‒‒ ‒‒‒‒‒‒‒‒‒‒ ‒‒‒‒‒‒‒‒‒‒ ‒‒‒‒‒‒‒‒‒‒ ‒‒‒‒‒‒‒‒‒‒ ‒‒‒‒‒‒‒‒‒‒ ‒‒‒‒‒‒‒‒‒‒ ‒‒‒‒‒‒‒‒‒‒ ‒‒‒‒‒‒‒‒‒‒ ‒‒‒‒‒‒‒‒‒‒ ‒‒‒‒‒‒‒‒‒‒ ‒‒‒‒‒‒‒‒‒‒ ‒‒‒‒‒‒‒‒‒‒ ‒‒‒‒‒‒‒‒‒‒ ‒‒‒‒‒‒‒‒‒‒ ‒‒‒‒‒‒‒‒‒‒ ‒‒‒‒‒‒‒‒‒‒ ‒‒‒‒‒‒‒‒‒‒ ‒‒‒‒‒‒‒‒‒‒ ‒‒‒‒‒‒‒‒‒‒ ‒‒‒‒‒‒‒‒‒‒ ‒‒‒‒‒‒‒‒‒‒ ‒‒‒‒‒‒‒‒‒‒ ‒‒‒‒‒‒‒‒‒‒ ‒‒‒‒‒‒‒‒‒‒ ‒‒‒‒‒‒‒‒‒‒ ‒‒‒‒‒‒‒‒‒‒ ‒‒‒‒‒‒‒‒‒‒ ‒‒‒‒‒‒‒‒‒‒ ‒‒‒‒‒‒‒‒‒‒ ‒‒‒‒‒‒‒‒‒‒ ‒‒‒‒‒‒‒‒‒‒ ‒‒‒‒‒‒‒‒‒‒ ‒‒‒‒‒‒‒‒‒‒ ‒‒‒‒‒‒‒‒‒‒ ‒‒‒‒‒‒‒‒‒‒ ‒‒‒‒‒‒‒‒‒‒ ‒‒‒‒‒‒‒‒‒‒ ‒‒‒‒‒‒‒‒‒‒ ‒‒‒‒‒‒‒‒‒‒ ‒‒‒‒‒‒‒‒‒‒ ‒‒‒‒‒‒‒‒‒‒ ‒‒‒‒‒‒‒‒‒‒ ‒‒‒‒‒‒‒‒‒‒ ‒‒‒‒‒‒‒‒‒‒ ‒‒‒‒‒‒‒‒‒‒ ‒‒‒‒‒‒‒‒‒‒ ‒‒‒‒‒‒‒‒‒‒ ‒‒‒‒‒‒‒‒‒‒ ‒‒‒‒‒‒‒‒‒‒ ‒‒‒‒‒‒‒‒‒‒ ‒‒‒‒‒‒‒‒‒‒ ‒‒‒‒‒‒‒‒‒‒ ‒‒‒‒‒‒‒‒‒‒ ‒‒‒‒‒‒‒‒‒‒ ‒‒‒‒‒‒‒‒‒‒ ‒‒‒‒‒‒‒‒‒‒ ‒‒‒‒‒‒‒‒‒‒ ‒‒‒‒‒‒‒‒‒‒ ‒‒‒‒‒‒‒‒‒‒ ‒‒‒‒‒‒‒‒‒‒ ‒‒‒‒‒‒‒‒‒‒ ‒‒‒‒‒‒‒‒‒‒ ‒‒‒‒‒‒‒‒‒‒ ‒‒‒‒‒‒‒‒‒‒ ‒‒‒‒‒‒‒‒‒‒ ‒‒‒‒‒‒‒‒‒‒ ‒‒‒‒‒‒‒‒‒‒ ‒‒‒‒‒‒‒‒‒‒ ‒‒‒‒‒‒‒‒‒‒ ‒‒‒‒‒‒‒‒‒‒ ‒‒‒‒‒‒‒‒‒‒ ‒‒‒‒‒‒‒‒‒‒ ‒‒‒‒‒‒‒‒‒‒ ‒‒‒‒‒‒‒‒‒‒ ‒‒‒‒‒‒‒‒‒‒ ‒‒‒‒‒‒‒‒‒‒ ‒‒‒‒‒‒‒‒‒‒ ‒‒‒‒‒‒‒‒‒‒ ‒‒‒‒‒‒‒‒‒‒ ‒‒‒‒‒‒‒‒‒‒ ‒‒‒‒‒‒‒‒‒‒ ‒‒‒‒‒‒‒‒‒‒ ‒‒‒‒‒‒‒‒‒‒ ‒‒‒‒‒‒‒‒‒‒ ‒‒‒‒‒‒‒‒‒‒ ‒‒‒‒‒‒‒‒‒‒ ‒‒‒‒‒‒‒‒‒‒ ‒‒‒‒‒‒‒‒‒‒ ‒‒‒‒‒‒‒‒‒‒ ‒‒‒‒‒‒‒‒‒‒ ‒‒‒‒‒‒‒‒‒‒ ‒‒‒‒‒‒‒‒‒‒ ‒‒‒‒‒‒‒‒‒‒ ‒‒‒‒‒‒‒‒‒‒ ‒‒‒‒‒‒‒‒‒‒ ‒‒‒‒‒‒‒‒‒‒ ‒‒‒‒‒‒‒‒‒‒ ‒‒‒‒‒‒‒‒‒‒ ‒‒‒‒‒‒‒‒‒‒ ‒‒‒‒‒‒‒‒‒‒ ‒‒‒‒‒‒‒‒‒‒ ‒‒‒‒‒‒‒‒‒‒ ‒‒‒‒‒‒‒‒‒‒ ‒‒‒‒‒‒‒‒‒‒ ‒‒‒‒‒‒‒‒‒‒ ‒‒‒‒‒‒‒‒‒‒ ‒‒‒‒‒‒‒‒‒‒ ‒‒‒‒‒‒‒‒‒‒ ‒‒‒‒‒‒‒‒‒‒ ‒‒‒‒‒‒‒‒‒‒ ‒‒‒‒‒‒‒‒‒‒ ‒‒‒‒‒‒‒‒‒‒ ‒‒‒‒‒‒‒‒‒‒ ‒‒‒‒‒‒‒‒‒‒ ‒‒‒‒‒‒‒‒‒‒ ‒‒‒‒‒‒‒‒‒‒ ‒‒‒‒‒‒‒‒‒‒ ‒‒‒‒‒‒‒‒‒‒ ‒‒‒‒‒‒‒‒‒‒ ‒‒‒‒‒‒‒‒‒‒ ‒‒‒‒‒‒‒‒‒‒ ‒‒‒‒‒‒‒‒‒‒ ‒‒‒‒‒‒‒‒‒‒ ‒‒‒‒‒‒‒‒‒‒ ‒‒‒‒‒‒‒‒‒‒ ‒‒‒‒‒‒‒‒‒‒ ‒‒‒‒‒‒‒‒‒‒ ‒‒‒‒‒‒‒‒‒‒ ‒‒‒‒‒‒‒‒‒‒ ‒‒‒‒‒‒‒‒‒‒ ‒‒‒‒‒‒‒‒‒‒ ‒‒‒‒‒‒‒‒‒‒ ‒‒‒‒‒‒‒‒‒‒ ‒‒‒‒‒‒‒‒‒‒ ‒‒‒‒‒‒‒‒‒‒ ‒‒‒‒‒‒‒‒‒‒ ‒‒‒‒‒‒‒‒‒‒ ‒‒‒‒‒‒‒‒‒‒ ‒‒‒‒‒‒‒‒‒‒ ‒‒‒‒‒‒‒‒‒‒ ‒‒‒‒‒‒‒‒‒‒ ‒‒‒‒‒‒‒‒‒‒ ‒‒‒‒‒‒‒‒‒‒ ‒‒‒‒‒‒‒‒‒‒ ‒‒‒‒‒‒‒‒‒‒ ‒‒‒‒‒‒‒‒‒‒ ‒‒‒‒‒‒‒‒‒‒ ‒‒‒‒‒‒‒‒‒‒ ‒‒‒‒‒‒‒‒‒‒ ‒‒‒‒‒‒‒‒‒‒ ‒‒‒‒‒‒‒‒‒‒ ‒‒‒‒‒‒‒‒‒‒ ‒‒‒‒‒‒‒‒‒‒ ‒‒‒‒‒‒‒‒‒‒ ‒‒‒‒‒‒‒‒‒‒ ‒‒‒‒‒‒‒‒‒‒ ‒‒‒‒‒‒‒‒‒‒ ‒‒‒‒‒‒‒‒‒‒ ‒‒‒‒‒‒‒‒‒‒ ‒‒‒‒‒‒‒‒‒‒ ‒‒‒‒‒‒‒‒‒‒ ‒‒‒‒‒‒‒‒‒‒ ‒‒‒‒‒‒‒‒‒‒ ‒‒‒‒‒‒‒‒‒‒ ‒‒‒‒‒‒‒‒‒‒ ‒‒‒‒‒‒‒‒‒‒ ‒‒‒‒‒‒‒‒‒‒ ‒‒‒‒‒‒‒‒‒‒ ‒‒‒‒‒‒‒‒‒‒ ‒‒‒‒‒‒‒‒‒‒ ‒‒‒‒‒‒‒‒‒‒ ‒‒‒‒‒‒‒‒‒‒ ‒‒‒‒‒‒‒‒‒‒ ‒‒‒‒‒‒‒‒‒‒ ‒‒‒‒‒‒‒‒‒‒ ‒‒‒‒‒‒‒‒‒‒
‒‒ ‒‒‒‒‒‒‒‒‒‒ ‒‒‒‒‒‒‒‒‒‒ ‒‒‒‒‒‒‒‒‒‒ ‒‒‒‒‒‒‒‒‒‒ ‒‒‒‒‒‒‒‒‒‒ ‒‒‒‒‒‒‒‒‒‒ ‒‒‒‒‒‒‒‒‒‒ ‒‒‒‒‒‒‒‒‒‒ ‒‒‒‒‒‒‒‒‒‒ ‒‒‒‒‒‒‒‒‒‒ ‒‒‒‒‒‒‒‒‒‒ ‒‒‒‒‒‒‒‒‒‒ ‒‒‒‒‒‒‒‒‒‒ ‒‒‒‒‒‒‒‒‒‒ ‒‒‒‒‒‒‒‒‒‒ ‒‒‒‒‒‒‒‒‒‒ ‒‒‒‒‒‒‒‒‒‒ ‒‒‒‒‒‒‒‒‒‒ ‒‒‒‒‒‒‒‒‒‒ ‒‒‒‒‒‒‒‒‒‒ ‒‒‒‒‒‒‒‒‒‒ ‒‒‒‒‒‒‒‒‒‒ ‒‒‒‒‒‒‒‒‒‒ ‒‒‒‒‒‒‒‒‒‒ ‒‒‒‒‒‒‒‒‒‒ ‒‒‒‒‒‒‒‒‒‒ ‒‒‒‒‒‒‒‒‒‒ ‒‒‒‒‒‒‒‒‒‒ ‒‒‒‒‒‒‒‒‒‒ ‒‒‒‒‒‒‒‒‒‒ ‒‒‒‒‒‒‒‒‒‒ ‒‒‒‒‒‒‒‒‒‒ ‒‒‒‒‒‒‒‒‒‒ ‒‒‒‒‒‒‒‒‒‒ ‒‒‒‒‒‒‒‒‒‒ ‒‒‒‒‒‒‒‒‒‒ ‒‒‒‒‒‒‒‒‒‒ ‒‒‒‒‒‒‒‒‒‒ ‒‒‒‒‒‒‒‒‒‒ ‒‒‒‒‒‒‒‒‒‒ ‒‒‒‒‒‒‒‒‒‒ ‒‒‒‒‒‒‒‒‒‒ ‒‒‒‒‒‒‒‒‒‒ ‒‒‒‒‒‒‒‒‒‒ ‒‒‒‒‒‒‒‒‒‒ ‒‒‒‒‒‒‒‒‒‒ ‒‒‒‒‒‒‒‒‒‒ ‒‒‒‒‒‒‒‒‒‒ ‒‒‒‒‒‒‒‒‒‒ ‒‒‒‒‒‒‒‒‒‒ ‒‒‒‒‒‒‒‒‒‒ ‒‒‒‒‒‒‒‒‒‒ ‒‒‒‒‒‒‒‒‒‒ ‒‒‒‒‒‒‒‒‒‒ ‒‒‒‒‒‒‒‒‒‒ ‒‒‒‒‒‒‒‒‒‒ ‒‒‒‒‒‒‒‒‒‒ ‒‒‒‒‒‒‒‒‒‒ ‒‒‒‒‒‒‒‒‒‒ ‒‒‒‒‒‒‒‒‒‒ ‒‒‒‒‒‒‒‒‒‒ ‒‒‒‒‒‒‒‒‒‒ ‒‒‒‒‒‒‒‒‒‒ ‒‒‒‒‒‒‒‒‒‒ ‒‒‒‒‒‒‒‒‒‒ ‒‒‒‒‒‒‒‒‒‒ ‒‒‒‒‒‒‒‒‒‒ ‒‒‒‒‒‒‒‒‒‒ ‒‒‒‒‒‒‒‒‒‒ ‒‒‒‒‒‒‒‒‒‒ ‒‒‒‒‒‒‒‒‒‒ ‒‒‒‒‒‒‒‒‒‒ ‒‒‒‒‒‒‒‒‒‒ ‒‒‒‒‒‒‒‒‒‒ ‒‒‒‒‒‒‒‒‒‒ ‒‒‒‒‒‒‒‒‒‒ ‒‒‒‒‒‒‒‒‒‒ ‒‒‒‒‒‒‒‒‒‒ ‒‒‒‒‒‒‒‒‒‒ ‒‒‒‒‒‒‒‒‒‒ ‒‒‒‒‒‒‒‒‒‒ ‒‒‒‒‒‒‒‒‒‒ ‒‒‒‒‒‒‒‒‒‒ ‒‒‒‒‒‒‒‒‒‒ ‒‒‒‒‒‒‒‒‒‒ ‒‒‒‒‒‒‒‒‒‒ ‒‒‒‒‒‒‒‒‒‒ ‒‒‒‒‒‒‒‒‒‒ ‒‒‒‒‒‒‒‒‒‒ ‒‒‒‒‒‒‒‒‒‒ ‒‒‒‒‒‒‒‒‒‒ ‒‒‒‒‒‒‒‒‒‒ ‒‒‒‒‒‒‒‒‒‒ ‒‒‒‒‒‒‒‒‒‒ ‒‒‒‒‒‒‒‒‒‒ ‒‒‒‒‒‒‒‒‒‒ ‒‒‒‒‒‒‒‒‒‒ ‒‒‒‒‒‒‒‒‒‒ ‒‒‒‒‒‒‒‒‒‒ ‒‒‒‒‒‒‒‒‒‒ ‒‒‒‒‒‒‒‒‒‒ ‒‒‒‒‒‒‒‒‒‒ ‒‒‒‒‒‒‒‒‒‒ ‒‒‒‒‒‒‒‒‒‒ ‒‒‒‒‒‒‒‒‒‒ ‒‒‒‒‒‒‒‒‒‒ ‒‒‒‒‒‒‒‒‒‒ ‒‒‒‒‒‒‒‒‒‒ ‒‒‒‒‒‒‒‒‒‒ ‒‒‒‒‒‒‒‒‒‒ ‒‒‒‒‒‒‒‒‒‒ ‒‒‒‒‒‒‒‒‒‒ ‒‒‒‒‒‒‒‒‒‒ ‒‒‒‒‒‒‒‒‒‒ ‒‒‒‒‒‒‒‒‒‒ ‒‒‒‒‒‒‒‒‒‒ ‒‒‒‒‒‒‒‒‒‒ ‒‒‒‒‒‒‒‒‒‒ ‒‒‒‒‒‒‒‒‒‒ ‒‒‒‒‒‒‒‒‒‒ ‒‒‒‒‒‒‒‒‒‒ ‒‒‒‒‒‒‒‒‒‒ ‒‒‒‒‒‒‒‒‒‒ ‒‒‒‒‒‒‒‒‒‒ ‒‒‒‒‒‒‒‒‒‒ ‒‒‒‒‒‒‒‒‒‒ ‒‒‒‒‒‒‒‒‒‒ ‒‒‒‒‒‒‒‒‒‒ ‒‒‒‒‒‒‒‒‒‒ ‒‒‒‒‒‒‒‒‒‒ ‒‒‒‒‒‒‒‒‒‒ ‒‒‒‒‒‒‒‒‒‒ ‒‒‒‒‒‒‒‒‒‒ ‒‒‒‒‒‒‒‒‒‒ ‒‒‒‒‒‒‒‒‒‒ ‒‒‒‒‒‒‒‒‒‒ ‒‒‒‒‒‒‒‒‒‒ ‒‒‒‒‒‒‒‒‒‒ ‒‒‒‒‒‒‒‒‒‒ ‒‒‒‒‒‒‒‒‒‒ ‒‒‒‒‒‒‒‒‒‒ ‒‒‒‒‒‒‒‒‒‒ ‒‒‒‒‒‒‒‒‒‒ ‒‒‒‒‒‒‒‒‒‒ ‒‒‒‒‒‒‒‒‒‒ ‒‒‒‒‒‒‒‒‒‒ ‒‒‒‒‒‒‒‒‒‒ ‒‒‒‒‒‒‒‒‒‒ ‒‒‒‒‒‒‒‒‒‒ ‒‒‒‒‒‒‒‒‒‒ ‒‒‒‒‒‒‒‒‒‒ ‒‒‒‒‒‒‒‒‒‒ ‒‒‒‒‒‒‒‒‒‒ ‒‒‒‒‒‒‒‒‒‒ ‒‒‒‒‒‒‒‒‒‒ ‒‒‒‒‒‒‒‒‒‒ ‒‒‒‒‒‒‒‒‒‒ ‒‒‒‒‒‒‒‒‒‒ ‒‒‒‒‒‒‒‒‒‒ ‒‒‒‒‒‒‒‒‒‒ ‒‒‒‒‒‒‒‒‒‒ ‒‒‒‒‒‒‒‒‒‒ ‒‒‒‒‒‒‒‒‒‒ ‒‒‒‒‒‒‒‒‒‒ ‒‒‒‒‒‒‒‒‒‒ ‒‒‒‒‒‒‒‒‒‒ ‒‒‒‒‒‒‒‒‒‒ ‒‒‒‒‒‒‒‒‒‒ ‒‒‒‒‒‒‒‒‒‒ ‒‒‒‒‒‒‒‒‒‒ ‒‒‒‒‒‒‒‒‒‒ ‒‒‒‒‒‒‒‒‒‒ ‒‒‒‒‒
CHRONIQUE
‒‒‒‒‒‒‒‒‒‒ ‒‒‒‒‒‒‒‒‒‒ ‒‒‒‒‒‒‒‒‒‒ ‒‒‒‒‒‒‒‒‒‒ ‒‒‒‒‒‒‒‒‒‒ ‒‒‒‒‒‒‒‒‒‒ ‒‒‒‒‒‒‒‒‒‒ ‒‒‒‒‒‒‒‒‒‒ ‒‒‒‒‒‒‒‒‒‒ ‒‒‒‒‒‒‒‒‒‒ ‒‒‒‒‒‒‒‒‒‒ ‒‒‒‒‒‒‒‒‒‒ ‒‒‒‒‒‒‒‒‒‒ ‒‒‒‒‒‒‒‒‒‒ ‒‒‒‒‒‒‒‒‒‒ ‒‒‒‒‒‒‒‒‒‒ ‒‒‒‒‒‒‒‒‒‒ ‒‒‒‒‒‒‒‒‒‒ ‒‒‒‒‒‒‒‒‒‒ ‒‒‒‒‒‒‒‒‒‒ ‒‒‒‒‒‒‒‒‒‒ ‒‒‒‒‒‒‒‒‒‒ ‒‒‒‒‒‒‒‒‒‒ ‒‒‒‒‒‒‒‒‒‒ ‒‒‒‒‒‒‒‒‒‒ ‒‒‒‒‒‒‒‒‒‒ ‒‒‒‒‒‒‒‒‒‒ ‒‒‒‒‒‒‒‒‒‒ ‒‒‒‒‒‒‒‒‒‒ ‒‒‒‒‒‒‒‒‒‒ ‒‒‒‒‒‒‒‒‒‒ ‒‒‒‒‒‒‒‒‒‒ ‒‒‒‒‒‒‒‒‒‒ ‒‒‒‒‒‒‒‒‒‒ ‒‒‒‒‒‒‒‒‒‒ ‒‒‒‒‒‒‒‒‒‒ ‒‒‒‒‒‒‒‒‒‒ ‒‒‒‒‒‒‒‒‒‒ ‒‒‒‒‒‒‒‒‒‒ ‒‒‒‒‒‒‒‒‒‒ ‒‒‒‒‒‒‒‒‒‒ ‒‒‒‒‒‒‒‒‒‒ ‒‒‒‒‒‒‒‒‒‒ ‒‒‒‒‒‒‒‒‒‒ ‒‒‒‒‒‒‒‒‒‒ ‒‒‒‒‒‒‒‒‒‒ ‒‒‒‒‒‒‒‒‒‒ ‒‒‒‒‒‒‒‒‒‒ ‒‒‒‒‒‒‒‒‒‒ ‒‒‒‒‒‒‒‒‒‒ ‒‒‒‒‒‒‒‒‒‒ ‒‒‒‒‒‒‒‒‒‒ ‒‒‒‒‒‒‒‒‒‒ ‒‒‒‒‒‒‒‒‒‒ ‒‒‒‒‒‒‒‒‒‒ ‒‒‒‒‒‒‒‒‒‒ ‒‒‒‒‒‒‒‒‒‒ ‒‒‒‒‒‒‒‒‒‒ ‒‒‒‒‒‒‒‒‒‒ ‒‒‒‒‒‒‒‒‒‒ ‒‒‒‒‒‒‒‒‒‒ ‒‒‒‒‒‒‒‒‒‒ ‒‒‒‒‒‒‒‒‒‒ ‒‒‒‒‒‒‒‒‒‒ ‒‒‒‒‒‒‒‒‒‒ ‒‒‒‒‒‒‒‒‒‒ ‒‒‒‒‒‒‒‒‒‒ ‒‒‒‒‒‒‒‒‒‒ ‒‒‒‒‒‒‒‒‒‒ ‒‒‒‒‒‒‒‒‒‒ ‒‒‒‒‒‒‒‒‒‒ ‒‒‒‒‒‒‒‒‒‒ ‒‒‒‒‒‒‒‒‒‒ ‒‒‒‒‒‒‒‒‒‒ ‒‒‒‒‒‒‒‒‒‒ ‒‒‒‒‒‒‒‒‒‒ ‒‒‒‒‒‒‒‒‒‒ ‒‒‒‒‒‒‒‒‒‒ ‒‒‒‒‒‒‒‒‒‒ ‒‒‒‒‒‒‒‒‒‒ ‒‒‒‒‒‒‒‒‒‒ ‒‒‒‒‒‒‒‒‒‒ ‒‒‒‒‒‒‒‒‒‒ ‒‒‒‒‒‒‒‒‒‒ ‒‒‒‒‒‒‒‒‒‒ ‒‒‒‒‒‒‒‒‒‒ ‒‒‒‒‒‒‒‒‒‒ ‒‒‒‒‒‒‒‒‒‒ ‒‒‒‒‒‒‒‒‒‒ ‒‒‒‒‒‒‒‒‒‒ ‒‒‒‒‒‒‒‒‒‒ ‒‒‒‒‒‒‒‒‒‒ ‒‒‒‒‒‒‒‒‒‒ ‒‒‒‒‒‒‒‒‒‒ ‒‒‒‒‒‒‒‒‒‒ ‒‒‒‒‒‒‒‒‒‒ ‒‒‒‒‒‒‒‒‒‒ ‒‒‒‒‒‒‒‒‒‒ ‒‒‒‒‒‒‒‒‒‒ ‒‒‒‒‒‒‒‒‒‒ ‒‒‒‒‒‒‒‒‒‒ ‒‒‒‒‒‒‒‒‒‒ ‒‒‒‒‒‒‒‒‒‒ ‒‒‒‒‒‒‒‒‒‒ ‒‒‒‒‒‒‒‒‒‒ ‒‒‒‒‒‒‒‒‒‒ ‒‒‒‒‒‒‒‒‒‒ ‒‒‒‒‒‒‒‒‒‒ ‒‒‒‒‒‒‒‒‒‒ ‒‒‒‒‒‒‒‒‒‒ ‒‒‒‒‒‒‒‒‒‒ ‒‒‒‒‒‒‒‒‒‒ ‒‒‒‒‒‒‒‒‒‒ ‒‒‒‒‒‒‒‒‒‒ ‒‒‒‒‒‒‒‒‒‒ ‒‒‒‒‒‒‒‒‒‒ ‒‒‒‒‒‒‒‒‒‒ ‒‒‒‒‒‒‒‒‒‒ ‒‒‒‒‒‒‒‒‒‒ ‒‒‒‒‒‒‒‒‒‒ ‒‒‒‒‒‒‒‒‒‒ ‒‒‒‒‒‒‒‒‒‒ ‒‒‒‒‒‒‒‒‒‒ ‒‒‒‒‒‒‒‒‒‒ ‒‒‒‒‒‒‒‒‒‒ ‒‒‒‒‒‒‒‒‒‒ ‒‒‒‒‒‒‒‒‒‒ ‒‒‒‒‒‒‒‒‒‒ ‒‒‒‒‒‒‒‒‒‒ ‒‒‒‒‒‒‒‒‒‒ ‒‒‒‒‒‒‒‒‒‒ ‒‒‒‒‒‒‒‒‒‒ ‒‒‒‒‒‒‒‒‒‒ ‒‒‒‒‒‒‒‒‒‒ ‒‒‒‒‒‒‒‒‒‒ ‒‒‒‒‒‒‒‒‒‒ ‒‒‒‒‒‒‒‒‒‒ ‒‒‒‒‒‒‒‒‒‒ ‒‒‒‒‒‒‒‒‒‒ ‒‒‒‒‒‒‒‒‒‒ ‒‒‒‒‒‒‒‒‒‒ ‒‒‒‒‒‒‒‒‒‒ ‒‒‒‒‒‒‒‒‒‒ ‒‒‒‒‒‒‒‒‒‒ ‒‒‒‒‒‒‒‒‒‒ ‒‒‒‒‒‒‒‒‒‒ ‒‒‒‒‒‒‒‒‒‒ ‒‒‒‒‒‒‒‒‒‒ ‒‒‒‒‒‒‒‒‒‒ ‒‒‒‒‒‒‒‒‒‒ ‒‒‒‒‒‒‒‒‒‒ ‒‒‒‒‒‒‒‒‒‒ ‒‒‒‒‒‒‒‒‒‒ ‒‒‒‒‒‒‒‒‒‒ ‒‒‒‒‒‒‒‒‒‒ ‒‒‒‒‒‒‒‒‒‒ ‒‒‒‒‒‒‒‒‒‒ ‒‒‒‒‒‒‒‒‒‒ ‒‒‒‒‒‒‒‒‒‒ ‒‒‒‒‒‒‒‒‒‒ ‒‒‒‒‒‒‒‒‒‒ ‒‒‒‒‒‒‒‒‒‒ ‒‒‒‒‒‒‒‒‒‒ ‒‒‒‒‒‒‒‒‒‒ ‒‒‒‒‒‒‒‒‒‒ ‒‒‒‒‒‒‒‒‒‒ ‒‒‒‒‒‒‒‒‒‒ ‒‒‒‒‒‒‒‒‒‒ ‒‒‒‒‒‒‒‒‒‒ ‒‒‒‒‒‒‒‒‒‒ ‒‒‒‒‒‒‒‒‒‒ ‒‒‒‒‒‒‒‒‒‒ ‒‒‒‒‒‒‒‒‒‒ ‒‒‒‒‒‒‒‒‒‒ ‒‒‒‒‒‒‒‒‒‒ ‒‒‒‒‒‒‒‒‒‒ ‒‒‒‒‒‒‒‒‒‒ ‒‒‒‒‒‒‒‒‒‒ ‒‒‒‒‒‒‒‒‒‒ ‒‒‒‒‒‒‒‒‒‒ ‒‒‒‒‒‒‒‒‒‒ ‒‒‒‒‒‒‒‒‒‒ ‒‒‒‒‒‒‒‒‒‒ ‒‒‒‒‒‒‒‒‒‒ ‒‒‒‒‒‒‒‒‒‒ ‒‒‒‒‒‒‒‒‒‒ ‒‒‒‒‒‒‒‒‒‒ ‒‒‒‒‒‒‒‒‒‒ ‒‒‒‒‒‒‒‒‒‒ ‒‒‒‒‒‒‒‒‒‒ ‒‒‒‒‒‒‒‒‒‒ ‒‒‒‒‒‒‒‒‒‒ ‒‒‒‒‒‒‒‒‒‒ ‒‒‒‒‒‒‒‒‒‒ ‒‒‒‒‒‒‒‒‒‒ ‒‒‒‒‒‒‒‒‒‒ ‒‒‒‒‒‒‒‒‒‒ ‒‒‒‒‒‒‒‒‒‒ ‒‒‒‒‒‒‒‒‒‒ ‒‒‒‒‒‒‒‒‒‒ ‒‒‒‒‒‒‒‒‒‒ ‒‒‒‒‒‒‒‒‒‒ ‒‒‒‒‒‒‒‒‒‒ ‒‒‒‒‒‒‒‒‒‒ ‒‒‒‒‒‒‒‒‒‒ ‒‒‒‒‒‒‒‒‒‒ ‒‒‒‒‒‒‒‒‒‒ ‒‒‒‒‒‒‒‒‒‒ ‒‒‒‒‒‒‒‒‒‒ ‒‒‒‒‒‒‒‒‒‒ ‒‒‒‒‒‒‒‒‒‒ ‒‒‒‒‒‒‒‒‒‒ ‒‒‒‒‒‒‒‒‒‒ ‒‒‒‒‒‒‒‒‒‒ ‒‒‒‒‒‒‒‒‒‒ ‒‒‒‒‒‒‒‒‒‒ ‒‒‒‒‒‒‒‒‒‒ ‒‒‒‒‒‒‒‒‒‒ ‒‒‒‒‒‒‒‒‒‒ ‒‒‒‒‒‒‒‒‒‒ ‒‒‒‒‒‒‒‒‒‒ ‒‒‒‒‒‒‒‒‒‒ ‒‒‒‒‒‒‒‒‒‒ ‒‒‒‒‒‒‒‒‒‒ ‒‒‒‒‒‒‒‒‒‒ ‒‒‒‒‒‒‒‒‒‒ ‒‒‒‒‒‒‒‒‒‒ ‒‒‒‒‒‒‒‒‒‒ ‒‒‒‒‒‒‒‒‒‒ ‒‒‒‒‒‒‒‒‒‒ ‒‒‒‒‒‒‒‒‒‒ ‒‒‒‒‒‒‒‒‒‒ ‒‒‒‒‒‒‒‒‒‒ ‒‒‒‒‒‒‒‒‒‒ ‒‒‒‒‒‒‒‒‒‒ ‒‒‒‒‒‒‒‒‒‒ ‒‒‒‒‒‒‒‒‒‒ ‒‒‒‒‒‒‒‒‒‒ ‒‒‒‒‒‒‒‒‒‒ ‒‒‒‒‒‒‒‒‒‒ ‒‒‒‒‒‒‒‒‒‒ ‒‒‒‒‒‒‒‒‒‒ ‒‒‒‒‒‒‒‒‒‒ ‒‒‒‒‒‒‒‒‒‒ ‒‒‒‒‒‒‒‒‒‒ ‒‒‒‒‒‒‒‒‒‒ ‒‒‒‒‒‒‒‒‒‒ ‒‒‒‒‒‒‒‒‒‒ ‒‒‒‒‒‒‒‒‒‒ ‒‒‒‒‒‒‒‒‒‒ ‒‒‒‒‒‒‒‒‒‒ ‒‒‒‒‒‒‒‒‒‒ ‒‒‒‒‒‒‒‒‒‒ ‒‒‒‒‒‒‒‒‒‒ ‒‒‒‒‒
‒‒‒‒‒‒‒‒‒ ‒‒‒‒‒‒‒‒‒‒ ‒‒‒‒‒‒‒‒‒‒ ‒‒‒‒‒‒‒‒‒‒ ‒‒‒‒‒‒‒‒‒‒ ‒‒‒‒‒‒‒‒‒‒ ‒‒‒‒‒‒‒‒‒‒ ‒‒‒‒‒‒‒‒‒‒ ‒‒‒‒‒‒‒‒‒‒ ‒‒‒‒‒‒‒‒‒‒ ‒‒‒‒‒‒‒‒‒‒ ‒‒‒‒‒‒‒‒‒‒ ‒‒‒‒‒‒‒‒‒‒ ‒‒‒‒‒‒‒‒‒‒ ‒‒‒‒‒‒‒‒‒‒ ‒‒‒‒‒‒‒‒‒‒ ‒‒‒‒‒‒‒‒‒‒ ‒‒‒‒‒‒‒‒‒‒ ‒‒‒‒‒‒‒‒‒‒ ‒‒‒‒‒‒‒‒‒‒ ‒‒‒‒‒‒‒‒‒‒ ‒‒‒‒‒‒‒‒‒‒ ‒‒‒‒‒‒‒‒‒‒ ‒‒‒‒‒‒‒‒‒‒ ‒‒‒‒‒‒‒‒‒‒ ‒‒‒‒‒‒‒‒‒‒ ‒‒‒‒‒‒‒‒‒‒ ‒‒‒‒‒‒‒‒‒‒ ‒‒‒‒‒‒‒‒‒‒ ‒‒‒‒‒‒‒‒‒‒ ‒‒‒‒‒‒‒‒‒‒ ‒‒‒‒‒‒‒‒‒‒ ‒‒‒‒‒‒‒‒‒‒ ‒‒‒‒‒‒‒‒‒‒ ‒‒‒‒‒‒‒‒‒‒ ‒‒‒‒‒‒‒‒‒‒ ‒‒‒‒‒‒‒‒‒‒ ‒‒‒‒‒‒‒‒‒‒ ‒‒‒‒‒‒‒‒‒‒ ‒‒‒‒‒‒‒‒‒‒ ‒‒‒‒‒‒‒‒‒‒ ‒‒‒‒‒‒‒‒‒‒ ‒‒‒‒‒‒‒‒‒‒ ‒‒‒‒‒‒‒‒‒‒ ‒‒‒‒‒‒‒‒‒‒ ‒‒‒‒‒‒‒‒‒‒ ‒‒‒‒‒‒‒‒‒‒ ‒‒‒‒‒‒‒‒‒‒ ‒‒‒‒‒‒‒‒‒‒ ‒‒‒‒‒‒‒‒‒‒ ‒‒‒‒‒‒‒‒‒‒ ‒‒‒‒‒‒‒‒‒‒ ‒‒‒‒‒‒‒‒‒‒ ‒‒‒‒‒‒‒‒‒‒ ‒‒‒‒‒‒‒‒‒‒ ‒‒‒‒‒‒‒‒‒‒ ‒‒‒‒‒‒‒‒‒‒ ‒‒‒‒‒‒‒‒‒‒ ‒‒‒‒‒‒‒‒‒‒ ‒‒‒‒‒‒‒‒‒‒ ‒‒‒‒‒‒‒‒‒‒ ‒‒‒‒‒‒‒‒‒‒ ‒‒‒‒‒‒‒‒‒‒ ‒‒‒‒‒‒‒‒‒‒ ‒‒‒‒‒‒‒‒‒‒ ‒‒‒‒‒‒‒‒‒‒ ‒‒‒‒‒‒‒‒‒‒ ‒‒‒‒‒‒‒‒‒‒ ‒‒‒‒‒‒‒‒‒‒ ‒‒‒‒‒‒‒‒‒‒ ‒‒‒‒‒‒‒‒‒‒ ‒‒‒‒‒‒‒‒‒‒ ‒‒‒‒‒‒‒‒‒‒ ‒‒‒‒‒‒‒‒‒‒ ‒‒‒‒‒‒‒‒‒‒ ‒‒‒‒‒‒‒‒‒‒ ‒‒‒‒‒‒‒‒‒‒ ‒‒‒‒‒‒‒‒‒‒ ‒‒‒‒‒‒‒‒‒‒ ‒‒‒‒‒‒‒‒‒‒ ‒‒‒‒‒‒‒‒‒‒ ‒‒‒‒‒‒‒‒‒‒ ‒‒‒‒‒‒‒‒‒‒ ‒‒‒‒‒‒‒‒‒‒ ‒‒‒‒‒‒‒‒‒‒ ‒‒‒‒‒‒‒‒‒‒ ‒‒‒‒‒‒‒‒‒‒ ‒‒‒‒‒‒‒‒‒‒ ‒‒‒‒‒‒‒‒‒‒ ‒‒‒‒‒‒‒‒‒‒ ‒‒‒‒‒‒‒‒‒‒ ‒‒‒‒‒‒‒‒‒‒ ‒‒‒‒‒‒‒‒‒‒ ‒‒‒‒‒‒‒‒‒‒ ‒‒‒‒‒‒‒‒‒‒ ‒‒‒‒‒‒‒‒‒‒ ‒‒‒‒‒‒‒‒‒‒ ‒‒‒‒‒‒‒‒‒‒ ‒‒‒‒‒‒‒‒‒‒ ‒‒‒‒‒‒‒‒‒‒ ‒‒‒‒‒‒‒‒‒‒ ‒‒‒‒‒‒‒‒‒‒ ‒‒‒‒‒‒‒‒‒‒ ‒‒‒‒‒‒‒‒‒‒ ‒‒‒‒‒‒‒‒‒‒ ‒‒‒‒‒‒‒‒‒‒ ‒‒‒‒‒‒‒‒‒‒ ‒‒‒‒‒‒‒‒‒‒ ‒‒‒‒‒‒‒‒‒‒ ‒‒‒‒‒‒‒‒‒‒ ‒‒‒‒‒‒‒‒‒‒ ‒‒‒‒‒‒‒‒‒‒ ‒‒‒‒‒‒‒‒‒‒ ‒‒‒‒‒‒‒‒‒‒ ‒‒‒‒‒‒‒‒‒‒ ‒‒‒‒‒‒‒‒‒‒ ‒‒‒‒‒‒‒‒‒‒ ‒‒‒‒‒‒‒‒‒‒ ‒‒‒‒‒‒‒‒‒‒ ‒‒‒‒‒‒‒‒‒‒ ‒‒‒‒‒‒‒‒‒‒ ‒‒‒‒‒‒‒‒‒‒ ‒‒‒‒‒‒‒‒‒‒ ‒‒‒‒‒‒‒‒‒‒ ‒‒‒‒‒‒‒‒‒‒ ‒‒‒‒‒‒‒‒‒‒ ‒‒‒‒‒‒‒‒‒‒ ‒‒‒‒‒‒‒‒‒‒ ‒‒‒‒‒‒‒‒‒‒ ‒‒‒‒‒‒‒‒‒‒ ‒‒‒‒‒‒‒‒‒‒ ‒‒‒‒‒‒‒‒‒‒ ‒‒‒‒‒‒‒‒‒‒ ‒‒‒‒‒‒‒‒‒‒ ‒‒‒‒‒‒‒‒‒‒ ‒‒‒‒‒‒‒‒‒‒ ‒‒‒‒‒‒‒‒‒‒ ‒‒‒‒‒‒‒‒‒‒ ‒‒‒‒‒‒‒‒‒‒ ‒‒‒‒‒‒‒‒‒‒ ‒‒‒‒‒‒‒‒‒‒ ‒‒‒‒‒‒‒‒‒‒ ‒‒‒‒‒‒‒‒‒‒ ‒‒‒‒‒‒‒‒‒‒ ‒‒‒‒‒‒‒‒‒‒ ‒‒‒‒‒‒‒‒‒‒ ‒‒‒‒‒‒‒‒‒‒ ‒‒‒‒‒‒‒‒‒‒ ‒‒‒‒‒‒‒‒‒‒ ‒‒‒‒‒‒‒‒‒‒ ‒‒‒‒‒‒‒‒‒‒ ‒‒‒‒‒‒‒‒‒‒ ‒‒‒‒‒‒‒‒‒‒ ‒‒‒‒‒‒‒‒‒‒ ‒‒‒‒‒‒‒‒‒‒ ‒‒‒‒‒‒‒‒‒‒ ‒‒‒‒‒‒‒‒‒‒ ‒‒‒‒‒‒‒‒‒‒ ‒‒‒‒‒‒‒‒‒‒ ‒‒‒‒‒‒‒‒‒‒ ‒‒‒‒‒‒‒‒‒‒ ‒‒‒‒‒‒‒‒‒‒ ‒‒‒‒‒‒‒‒‒‒ ‒‒‒‒‒‒‒‒‒‒ ‒‒‒‒‒‒‒‒‒‒ ‒‒‒‒‒‒‒‒‒‒ ‒‒‒‒‒‒‒‒‒‒ ‒‒‒‒‒‒‒‒‒‒ ‒‒‒‒‒‒‒‒‒‒ ‒‒‒‒‒‒‒‒‒‒ ‒‒‒‒‒‒‒‒‒‒ ‒‒‒‒‒‒‒‒‒‒ ‒‒‒‒‒‒‒‒‒‒ ‒‒‒‒‒‒‒‒‒‒ ‒‒‒‒‒‒‒‒‒‒ ‒‒‒‒‒‒‒‒‒‒ ‒‒‒‒‒‒‒‒‒‒ ‒‒‒‒‒‒‒‒‒‒ ‒‒‒‒‒‒‒‒‒‒ ‒‒‒‒‒‒‒‒‒‒ ‒‒‒‒‒‒‒‒‒‒ ‒‒‒‒‒‒‒‒‒‒ ‒‒‒‒‒‒‒‒‒‒ ‒‒‒‒‒‒‒‒‒‒ ‒‒‒‒‒‒‒‒‒‒ ‒‒‒‒‒‒‒‒‒‒ ‒‒‒‒‒‒‒‒‒‒ ‒‒‒‒‒‒‒‒‒‒ ‒‒‒‒‒‒‒‒‒‒ ‒‒‒‒‒‒‒‒‒‒ ‒‒‒‒‒‒‒‒‒‒ ‒‒‒‒‒‒‒‒‒‒ ‒‒‒‒‒‒‒‒‒‒ ‒‒‒‒‒‒‒‒‒‒ ‒‒‒‒‒‒‒‒‒‒ ‒‒‒‒‒‒‒‒‒‒ ‒‒‒‒‒‒‒‒‒‒ ‒‒‒‒‒‒‒‒‒‒ ‒‒‒‒‒‒‒‒‒‒ ‒‒‒‒‒‒‒‒‒‒ ‒‒‒‒‒‒‒‒‒‒ ‒‒‒‒‒‒‒‒‒‒ ‒‒‒‒‒‒‒‒‒‒ ‒‒‒‒‒‒‒‒‒‒ ‒‒‒‒‒‒‒‒‒‒ ‒‒‒‒‒‒‒‒‒‒ ‒‒‒‒‒‒‒‒‒‒ ‒‒‒‒‒‒‒‒‒‒ ‒‒‒‒‒‒‒‒‒‒ ‒‒‒‒‒‒‒‒‒‒ ‒‒‒‒‒‒‒‒‒‒ ‒‒‒‒‒‒‒‒‒‒ ‒‒‒‒‒‒‒‒‒‒ ‒‒‒‒‒‒‒‒‒‒ ‒‒‒‒‒‒‒‒‒‒ ‒‒‒‒‒‒‒‒‒‒ ‒‒‒‒‒‒‒‒‒‒ ‒‒‒‒‒‒‒‒‒‒ ‒‒‒
‒‒‒‒‒‒‒ ‒‒‒‒‒‒‒‒‒‒ ‒‒‒‒‒‒‒‒‒‒ ‒‒‒‒‒‒‒‒‒‒ ‒‒‒‒‒‒‒‒‒‒ ‒‒‒‒‒‒‒‒‒‒ ‒‒‒‒‒‒‒‒‒‒ ‒‒‒‒‒‒‒‒‒‒ ‒‒‒‒‒‒‒‒‒‒ ‒‒‒‒‒‒‒‒‒‒ ‒‒‒‒‒‒‒‒‒‒ ‒‒‒‒‒‒‒‒‒‒ ‒‒‒‒‒‒‒‒‒‒ ‒‒‒‒‒‒‒‒‒‒ ‒‒‒‒‒‒‒‒‒‒ ‒‒‒‒‒‒‒‒‒‒ ‒‒‒‒‒‒‒‒‒‒ ‒‒‒‒‒‒‒‒‒‒ ‒‒‒‒‒‒‒‒‒‒ ‒‒‒‒‒‒‒‒‒‒ ‒‒‒‒‒‒‒‒‒‒ ‒‒‒‒‒‒‒‒‒‒ ‒‒‒‒‒‒‒‒‒‒ ‒‒‒‒‒‒‒‒‒‒ ‒‒‒‒‒‒‒‒‒‒ ‒‒‒‒‒‒‒‒‒‒ ‒‒‒‒‒‒‒‒‒‒ ‒‒‒‒‒‒‒‒‒‒ ‒‒‒‒‒‒‒‒‒‒ ‒‒‒‒‒‒‒‒‒‒ ‒‒‒‒‒‒‒‒‒‒ ‒‒‒‒‒‒‒‒‒‒ ‒‒‒‒‒‒‒‒‒‒ ‒‒‒‒‒‒‒‒‒‒ ‒‒‒‒‒‒‒‒‒‒ ‒‒‒‒‒‒‒‒‒‒ ‒‒‒‒‒‒‒‒‒‒ ‒‒‒‒‒‒‒‒‒‒ ‒‒‒‒‒‒‒‒‒‒ ‒‒‒‒‒‒‒‒‒‒ ‒‒‒‒‒‒‒‒‒‒ ‒‒‒‒‒‒‒‒‒‒ ‒‒‒‒‒‒‒‒‒‒ ‒‒‒‒‒‒‒‒‒‒ ‒‒‒‒‒‒‒‒‒‒ ‒‒‒‒‒‒‒‒‒‒ ‒‒‒‒‒‒‒‒‒‒ ‒‒‒‒‒‒‒‒‒‒ ‒‒‒‒‒‒‒‒‒‒ ‒‒‒‒‒‒‒‒‒‒ ‒‒‒‒‒‒‒‒‒‒ ‒‒‒‒‒‒‒‒‒‒ ‒‒‒‒‒‒‒‒‒‒ ‒‒‒‒‒‒‒‒‒‒ ‒‒‒‒‒‒‒‒‒‒ ‒‒‒‒‒‒‒‒‒‒ ‒‒‒‒‒‒‒‒‒‒ ‒‒‒‒‒‒‒‒‒‒ ‒‒‒‒‒‒‒‒‒‒ ‒‒‒‒‒‒‒‒‒‒ ‒‒‒‒‒‒‒‒‒‒ ‒‒‒‒‒‒‒‒‒‒ ‒‒‒‒‒‒‒‒‒‒ ‒‒‒‒‒‒‒‒‒‒ ‒‒‒‒‒‒‒‒‒‒ ‒‒‒‒‒‒‒‒‒‒ ‒‒‒‒‒‒‒‒‒‒ ‒‒‒‒‒‒‒‒‒‒ ‒‒‒‒‒‒‒‒‒‒ ‒‒‒‒‒‒‒‒‒‒ ‒‒‒‒‒‒‒‒‒‒ ‒‒‒‒‒‒‒‒‒‒ ‒‒‒‒‒‒‒‒‒‒ ‒‒‒‒‒‒‒‒‒‒ ‒‒‒‒‒‒‒‒‒‒ ‒‒‒‒‒‒‒‒‒‒ ‒‒‒‒‒‒‒‒‒‒ ‒‒‒‒‒‒‒‒‒‒ ‒‒‒‒‒‒‒‒‒‒ ‒‒‒‒‒‒‒‒‒‒ ‒‒‒‒‒‒‒‒‒‒ ‒‒‒‒‒‒‒‒‒‒ ‒‒‒‒‒‒‒‒‒‒ ‒‒‒‒‒‒‒‒‒‒ ‒‒‒‒‒‒‒‒‒‒ ‒‒‒‒‒‒‒‒‒‒ ‒‒‒‒‒‒‒‒‒‒ ‒‒‒‒‒‒‒‒‒‒ ‒‒‒‒‒‒‒‒‒‒ ‒‒‒‒‒‒‒‒‒‒ ‒‒‒‒‒‒‒‒‒‒ ‒‒‒‒‒‒‒‒‒‒ ‒‒‒‒‒‒‒‒‒‒ ‒‒‒‒‒‒‒‒‒‒ ‒‒‒‒‒‒‒‒‒‒ ‒‒‒‒‒‒‒‒‒‒ ‒‒‒‒‒‒‒‒‒‒ ‒‒‒‒‒‒‒‒‒‒ ‒‒‒‒‒‒‒‒‒‒ ‒‒‒‒‒‒‒‒‒‒ ‒‒‒‒‒‒‒‒‒‒ ‒‒‒‒‒‒‒‒‒‒ ‒‒‒‒‒‒‒‒‒‒ ‒‒‒‒‒‒‒‒‒‒ ‒‒‒‒‒‒‒‒‒‒ ‒‒‒‒‒‒‒‒‒‒ ‒‒‒‒‒‒‒‒‒‒ ‒‒‒‒‒‒‒‒‒‒ ‒‒‒‒‒‒‒‒‒‒ ‒‒‒‒‒‒‒‒‒‒ ‒‒‒‒‒‒‒‒‒‒ ‒‒‒‒‒‒‒‒‒‒ ‒‒‒‒‒‒‒‒‒‒ ‒‒‒‒‒‒‒‒‒‒ ‒‒‒‒‒‒‒‒‒‒ ‒‒‒‒‒‒‒‒‒‒ ‒‒‒‒‒‒‒‒‒‒ ‒‒‒‒‒‒‒‒‒‒ ‒‒‒‒‒‒‒‒‒‒ ‒‒‒‒‒‒‒‒‒‒ ‒‒‒‒‒‒‒‒‒‒ ‒‒‒‒‒‒‒‒‒‒ ‒‒‒‒‒‒‒‒‒‒ ‒‒‒‒‒‒‒‒‒‒ ‒‒‒‒‒‒‒‒‒‒ ‒‒‒‒‒‒‒‒‒‒ ‒‒‒‒‒‒‒‒‒‒ ‒‒‒‒‒‒‒‒‒‒ ‒‒‒‒‒‒‒‒‒‒ ‒‒‒‒‒‒‒‒‒‒ ‒‒‒‒‒‒‒‒‒‒ ‒‒‒‒‒‒‒‒‒‒ ‒‒‒‒‒‒‒‒‒‒ ‒‒‒‒‒‒‒‒‒‒ ‒‒‒‒‒‒‒‒‒‒ ‒‒‒‒‒‒‒‒‒‒ ‒‒‒‒‒‒‒‒‒‒ ‒‒‒‒‒‒‒‒‒‒ ‒‒‒‒‒‒‒‒‒‒ ‒‒‒‒‒‒‒‒‒‒ ‒‒‒‒‒‒‒‒‒‒ ‒‒‒‒‒‒‒‒‒‒ ‒‒‒‒‒‒‒‒‒‒ ‒‒‒‒‒‒‒‒‒‒ ‒‒‒‒‒‒‒‒‒‒ ‒‒‒‒‒‒‒‒‒‒ ‒‒‒‒‒‒‒‒‒‒ ‒‒‒‒‒‒‒‒‒‒ ‒‒‒‒‒‒‒‒‒‒ ‒‒‒‒‒‒‒‒‒‒ ‒‒‒‒‒‒‒‒‒‒ ‒‒‒‒‒‒‒‒‒‒ ‒‒‒‒‒‒‒‒‒‒ ‒‒‒‒‒‒‒‒‒‒ ‒‒‒‒‒‒‒‒‒‒ ‒‒‒‒‒‒‒‒‒‒ ‒‒‒‒‒‒‒‒‒‒ ‒‒‒‒‒‒‒‒‒‒ ‒‒‒‒‒‒‒‒‒‒ ‒‒‒‒‒‒‒‒‒‒ ‒‒‒‒‒‒‒‒‒‒ ‒‒‒‒‒‒‒‒‒‒ ‒‒‒‒‒‒‒‒‒‒ ‒‒‒‒‒‒‒‒‒‒ ‒‒‒‒‒‒‒‒‒‒ ‒‒‒‒‒‒‒‒‒‒ ‒‒‒‒‒‒‒‒‒‒ ‒‒‒‒‒‒‒‒‒‒ ‒‒‒‒‒‒‒‒‒‒ ‒‒‒‒‒‒‒‒‒‒ ‒‒‒‒‒‒‒‒‒‒ ‒‒‒‒‒‒‒‒‒‒ ‒‒‒‒‒‒‒‒‒‒ ‒‒‒‒‒‒‒‒‒‒ ‒‒‒‒‒‒‒‒‒‒ ‒‒‒‒‒‒‒‒‒‒ ‒‒‒‒‒‒‒‒‒‒ ‒‒‒‒‒‒‒‒‒‒ ‒‒‒‒‒‒‒‒‒‒ ‒‒‒‒‒‒‒‒‒‒ ‒‒‒‒‒‒‒‒‒‒ ‒‒‒‒‒‒‒‒‒‒ ‒‒‒‒‒‒‒‒‒‒ ‒‒‒‒‒‒‒‒‒‒ ‒‒‒‒‒‒‒‒‒‒ ‒‒‒‒‒‒‒‒‒‒ ‒‒‒‒‒‒‒‒‒‒ ‒‒‒‒‒‒‒‒‒‒ ‒‒‒‒‒‒‒‒‒‒ ‒‒‒‒‒‒‒‒‒‒ ‒‒‒‒‒‒‒‒‒‒ ‒‒‒‒‒‒‒‒‒‒ ‒‒‒‒‒‒‒‒‒‒ ‒‒‒‒‒‒‒‒‒‒ ‒‒‒‒‒‒‒‒‒‒ ‒‒‒‒‒‒‒‒‒‒ ‒‒‒‒‒‒‒‒‒‒ ‒‒‒‒‒‒‒‒‒‒ ‒‒‒‒‒‒‒‒‒‒ ‒‒‒‒‒‒‒‒‒‒ ‒‒‒‒‒‒‒‒‒‒ ‒‒‒‒‒‒‒‒‒‒ ‒‒‒‒‒‒‒‒‒‒ ‒‒‒‒‒‒‒‒‒‒ ‒‒‒‒‒‒‒‒‒‒ ‒‒‒‒‒‒‒‒‒‒ ‒‒‒‒‒‒‒‒‒‒ ‒‒‒‒‒‒‒‒‒‒ ‒‒‒‒‒‒‒‒‒‒ ‒‒‒‒‒‒‒‒‒‒ ‒‒‒‒‒‒‒‒‒‒ ‒‒‒‒‒‒‒‒‒‒ ‒‒‒‒‒‒‒‒‒‒ ‒‒‒‒‒‒‒‒‒‒ ‒‒‒‒‒‒‒‒‒‒ ‒‒‒‒‒‒‒‒‒‒ ‒‒‒‒‒‒‒‒‒‒ ‒‒‒‒‒‒‒‒‒‒ ‒‒‒‒‒‒‒‒‒‒ ‒‒‒‒‒‒‒‒‒‒ ‒‒‒‒‒‒‒‒‒‒ ‒‒‒‒‒‒‒‒‒‒ ‒‒‒‒‒‒‒‒‒‒ ‒‒‒‒‒‒‒‒‒‒ ‒‒‒‒‒‒‒‒‒‒ ‒‒‒‒‒‒‒‒‒‒ ‒‒‒‒‒‒‒‒‒‒ ‒‒‒‒‒‒‒‒‒‒ ‒‒‒‒‒‒‒‒‒‒ ‒‒‒‒‒‒‒‒‒‒ ‒‒‒‒‒‒‒‒‒‒ ‒‒‒‒‒‒‒‒‒‒ ‒‒‒‒‒‒‒‒‒‒ ‒‒‒‒‒‒‒‒‒‒ ‒‒‒‒‒‒‒‒‒‒ ‒‒‒‒‒‒‒‒‒‒ ‒‒‒‒‒‒‒‒‒‒ ‒‒‒‒‒‒‒‒‒‒ ‒‒‒‒‒‒‒‒‒‒ ‒‒‒‒‒‒‒‒‒‒ ‒‒‒‒‒‒‒‒‒‒ ‒‒‒‒‒‒‒‒‒‒ ‒‒‒‒‒‒‒‒‒‒ ‒‒‒‒‒‒‒‒‒‒ ‒‒‒‒‒‒‒‒‒‒ ‒‒‒‒‒‒‒‒‒‒ ‒‒‒‒‒‒‒‒‒‒ ‒‒‒‒‒‒‒‒‒‒ ‒‒‒‒‒‒‒‒‒‒ ‒‒‒‒‒‒‒‒‒‒ ‒‒‒‒‒‒‒‒‒‒ ‒‒‒‒‒‒‒‒‒‒ ‒‒‒‒‒‒‒‒‒‒ ‒‒‒‒‒‒‒‒‒‒ ‒‒‒‒‒‒‒‒‒‒ ‒‒‒‒‒‒‒‒‒‒ ‒‒‒‒‒‒‒‒‒‒ ‒‒‒‒‒‒‒‒‒‒ ‒‒‒‒‒‒‒‒‒‒ ‒‒‒‒‒‒‒‒‒‒ ‒‒‒‒‒‒‒‒‒‒ ‒‒‒‒‒‒‒‒‒‒ ‒‒‒‒‒‒‒‒‒‒ ‒‒‒‒‒‒‒‒‒‒ ‒‒‒‒‒‒‒‒‒‒ ‒‒‒‒‒‒‒‒‒‒ ‒‒‒‒‒‒‒‒‒‒ ‒‒‒‒‒‒‒‒‒‒ ‒‒‒‒‒‒‒‒‒‒ ‒‒‒‒‒‒‒‒‒‒ ‒‒‒‒‒‒‒‒‒‒ ‒‒‒‒‒‒‒‒‒‒ ‒‒‒‒‒‒‒‒‒‒
‒‒‒‒‒ ‒‒‒‒‒‒‒‒‒‒ ‒‒‒‒‒‒‒‒‒‒ ‒‒‒‒‒‒‒‒‒‒ ‒‒‒‒‒‒‒‒‒‒ ‒‒‒‒‒‒‒‒‒‒ ‒‒‒‒‒‒‒‒‒‒ ‒‒‒‒‒‒‒‒‒‒ ‒‒‒‒‒‒‒‒‒‒ ‒‒‒‒‒‒‒‒‒‒ ‒‒‒‒‒‒‒‒‒‒ ‒‒‒‒‒‒‒‒‒‒ ‒‒‒‒‒‒‒‒‒‒ ‒‒‒‒‒‒‒‒‒‒ ‒‒‒‒‒‒‒‒‒‒ ‒‒‒‒‒‒‒‒‒‒ ‒‒‒‒‒‒‒‒‒‒ ‒‒‒‒‒‒‒‒‒‒ ‒‒‒‒‒‒‒‒‒‒ ‒‒‒‒‒‒‒‒‒‒ ‒‒‒‒‒‒‒‒‒‒ ‒‒‒‒‒‒‒‒‒‒ ‒‒‒‒‒‒‒‒‒‒ ‒‒‒‒‒‒‒‒‒‒ ‒‒‒‒‒‒‒‒‒‒ ‒‒‒‒‒‒‒‒‒‒ ‒‒‒‒‒‒‒‒‒‒ ‒‒‒‒‒‒‒‒‒‒ ‒‒‒‒‒‒‒‒‒‒ ‒‒‒‒‒‒‒‒‒‒ ‒‒‒‒‒‒‒‒‒‒ ‒‒‒‒‒‒‒‒‒‒ ‒‒‒‒‒‒‒‒‒‒ ‒‒‒‒‒‒‒‒‒‒ ‒‒‒‒‒‒‒‒‒‒ ‒‒‒‒‒‒‒‒‒‒ ‒‒‒‒‒‒‒‒‒‒ ‒‒‒‒‒‒‒‒‒‒ ‒‒‒‒‒‒‒‒‒‒ ‒‒‒‒‒‒‒‒‒‒ ‒‒‒‒‒‒‒‒‒‒ ‒‒‒‒‒‒‒‒‒‒ ‒‒‒‒‒‒‒‒‒‒ ‒‒‒‒‒‒‒‒‒‒ ‒‒‒‒‒‒‒‒‒‒ ‒‒‒‒‒‒‒‒‒‒ ‒‒‒‒‒‒‒‒‒‒ ‒‒‒‒‒‒‒‒‒‒ ‒‒‒‒‒‒‒‒‒‒ ‒‒‒‒‒‒‒‒‒‒ ‒‒‒‒‒‒‒‒‒‒ ‒‒‒‒‒‒‒‒‒‒ ‒‒‒‒‒‒‒‒‒‒ ‒‒‒‒‒‒‒‒‒‒ ‒‒‒‒‒‒‒‒‒‒ ‒‒‒‒‒‒‒‒‒‒ ‒‒‒‒‒‒‒‒‒‒ ‒‒‒‒‒‒‒‒‒‒ ‒‒‒‒‒‒‒‒‒‒ ‒‒‒‒‒‒‒‒‒‒ ‒‒‒‒‒‒‒‒‒‒ ‒‒‒‒‒‒‒‒‒‒ ‒‒‒‒‒‒‒‒‒‒ ‒‒‒‒‒‒‒‒‒‒ ‒‒‒‒‒‒‒‒‒‒ ‒‒‒‒‒‒‒‒‒‒ ‒‒‒‒‒‒‒‒‒‒ ‒‒‒‒‒‒‒‒‒‒ ‒‒‒‒‒‒‒‒‒‒ ‒‒‒‒‒‒‒‒‒‒ ‒‒‒‒‒‒‒‒‒‒ ‒‒‒‒‒‒‒‒‒‒ ‒‒‒‒‒‒‒‒‒‒ ‒‒‒‒‒‒‒‒‒‒ ‒‒‒‒‒‒‒‒‒‒ ‒‒‒‒‒‒‒‒‒‒ ‒‒‒‒‒‒‒‒‒‒ ‒‒‒‒‒‒‒‒‒‒ ‒‒‒‒‒‒‒‒‒‒ ‒‒‒‒‒‒‒‒‒‒ ‒‒‒‒‒‒‒‒‒‒ ‒‒‒‒‒‒‒‒‒‒ ‒‒‒‒‒‒‒‒‒‒ ‒‒‒‒‒‒‒‒‒‒ ‒‒‒‒‒‒‒‒‒‒ ‒‒‒‒‒‒‒‒‒‒ ‒‒‒‒‒‒‒‒‒‒ ‒‒‒‒‒‒‒‒‒‒ ‒‒‒‒‒‒‒‒‒‒ ‒‒‒‒‒‒‒‒‒‒ ‒‒‒‒‒‒‒‒‒‒ ‒‒‒‒‒‒‒‒‒‒ ‒‒‒‒‒‒‒‒‒‒ ‒‒‒‒‒‒‒‒‒‒ ‒‒‒‒‒‒‒‒‒‒ ‒‒‒‒‒‒‒‒‒‒ ‒‒‒‒‒‒‒‒‒‒ ‒‒‒‒‒‒‒‒‒‒ ‒‒‒‒‒‒‒‒‒‒ ‒‒‒‒‒‒‒‒‒‒ ‒‒‒‒‒‒‒‒‒‒ ‒‒‒‒‒‒‒‒‒‒ ‒‒‒‒‒‒‒‒‒‒ ‒‒‒‒‒‒‒‒‒‒ ‒‒‒‒‒‒‒‒‒‒ ‒‒‒‒‒‒‒‒‒‒ ‒‒‒‒‒‒‒‒‒‒ ‒‒‒‒‒‒‒‒‒‒ ‒‒‒‒‒‒‒‒‒‒ ‒‒‒‒‒‒‒‒‒‒ ‒‒‒‒‒‒‒‒‒‒ ‒‒‒‒‒‒‒‒‒‒ ‒‒‒‒‒‒‒‒‒‒ ‒‒‒‒‒‒‒‒‒‒ ‒‒‒‒‒‒‒‒‒‒ ‒‒‒‒‒‒‒‒‒‒ ‒‒‒‒‒‒‒‒‒‒ ‒‒‒‒‒‒‒‒‒‒ ‒‒‒‒‒‒‒‒‒‒ ‒‒‒‒‒‒‒‒‒‒ ‒‒‒‒‒‒‒‒‒‒ ‒‒‒‒‒‒‒‒‒‒ ‒‒‒‒‒‒‒‒‒‒ ‒‒‒‒‒‒‒‒‒‒ ‒‒‒‒‒‒‒‒‒‒ ‒‒‒‒‒‒‒‒‒‒ ‒‒‒‒‒‒‒‒‒‒ ‒‒‒‒‒‒‒‒‒‒ ‒‒‒‒‒‒‒‒‒‒ ‒‒‒‒‒‒‒‒‒‒ ‒‒‒‒‒‒‒‒‒‒ ‒‒‒‒‒‒‒‒‒‒ ‒‒‒‒‒‒‒‒‒‒ ‒‒‒‒‒‒‒‒‒‒ ‒‒‒‒‒‒‒‒‒‒ ‒‒‒‒‒‒‒‒‒‒ ‒‒‒‒‒‒‒‒‒‒ ‒‒‒‒‒‒‒‒‒‒ ‒‒‒‒‒‒‒‒‒‒ ‒‒‒‒‒‒‒‒‒‒ ‒‒‒‒‒‒‒‒‒‒ ‒‒‒‒‒‒‒‒‒‒ ‒‒‒‒‒‒‒‒‒‒ ‒‒‒‒‒‒‒‒‒‒ ‒‒‒‒‒‒‒‒‒‒ ‒‒‒‒‒‒‒‒‒‒ ‒‒‒‒‒‒‒‒‒‒ ‒‒‒‒‒‒‒‒‒‒ ‒‒‒‒‒‒‒‒‒‒ ‒‒‒‒‒‒‒‒‒‒ ‒‒‒‒‒‒‒‒‒‒ ‒‒‒‒‒‒‒‒‒‒ ‒‒‒‒‒‒‒‒‒‒ ‒‒‒‒‒‒‒‒‒‒ ‒‒‒‒‒‒‒‒‒‒ ‒‒‒‒‒‒‒‒‒‒ ‒‒‒‒‒‒‒‒‒‒ ‒‒‒‒‒‒‒‒‒‒ ‒‒‒‒‒‒‒‒‒‒ ‒‒‒‒‒‒‒‒‒‒ ‒‒‒‒‒‒‒‒‒‒ ‒‒‒‒‒‒‒‒‒‒ ‒‒‒‒‒‒‒‒‒‒ ‒‒‒‒‒‒‒‒‒‒ ‒‒‒‒‒‒‒‒‒‒ ‒‒‒‒‒‒‒‒‒‒ ‒‒‒‒‒‒‒‒‒‒ ‒‒‒‒‒‒‒‒‒‒ ‒‒‒‒‒‒‒‒‒‒ ‒‒‒‒‒‒‒‒‒‒ ‒‒‒‒‒‒‒‒‒‒ ‒‒‒‒‒‒‒‒‒‒ ‒‒‒‒‒‒‒‒‒‒ ‒‒‒‒‒‒‒‒‒‒ ‒‒‒‒‒‒‒‒‒‒ ‒‒‒‒‒‒‒‒‒‒ ‒‒‒‒‒‒‒‒‒‒ ‒‒‒‒‒‒‒‒‒‒ ‒‒‒‒‒‒‒‒‒‒ ‒‒‒‒‒‒‒‒‒‒ ‒‒‒‒‒‒‒‒‒‒ ‒‒‒‒‒‒‒‒‒‒ ‒‒‒‒‒‒‒‒‒‒ ‒‒‒‒‒‒‒‒‒‒ ‒‒‒‒‒‒‒‒‒‒ ‒‒‒‒‒‒‒‒‒‒ ‒‒‒‒‒‒‒‒‒‒ ‒‒‒‒‒‒‒‒‒‒ ‒‒‒‒‒‒‒‒‒‒ ‒‒‒‒‒‒‒‒‒‒ ‒‒‒‒‒‒‒‒‒‒ ‒‒‒‒
‒‒‒ ‒‒‒‒‒‒‒‒‒‒ ‒‒‒‒‒‒‒‒‒‒ ‒‒‒‒‒‒‒‒‒‒ ‒‒‒‒‒‒‒‒‒‒ ‒‒‒‒‒‒‒‒‒‒ ‒‒‒‒‒‒‒‒‒‒ ‒‒‒‒‒‒‒‒‒‒ ‒‒‒‒‒‒‒‒‒‒ ‒‒‒‒‒‒‒‒‒‒ ‒‒‒‒‒‒‒‒‒‒ ‒‒‒‒‒‒‒‒‒‒ ‒‒‒‒‒‒‒‒‒‒ ‒‒‒‒‒‒‒‒‒‒ ‒‒‒‒‒‒‒‒‒‒ ‒‒‒‒‒‒‒‒‒‒ ‒‒‒‒‒‒‒‒‒‒ ‒‒‒‒‒‒‒‒‒‒ ‒‒‒‒‒‒‒‒‒‒ ‒‒‒‒‒‒‒‒‒‒ ‒‒‒‒‒‒‒‒‒‒ ‒‒‒‒‒‒‒‒‒‒ ‒‒‒‒‒‒‒‒‒‒ ‒‒‒‒‒‒‒‒‒‒ ‒‒‒‒‒‒‒‒‒‒ ‒‒‒‒‒‒‒‒‒‒ ‒‒‒‒‒‒‒‒‒‒ ‒‒‒‒‒‒‒‒‒‒ ‒‒‒‒‒‒‒‒‒‒ ‒‒‒‒‒‒‒‒‒‒ ‒‒‒‒‒‒‒‒‒‒ ‒‒‒‒‒‒‒‒‒‒ ‒‒‒‒‒‒‒‒‒‒ ‒‒‒‒‒‒‒‒‒‒ ‒‒‒‒‒‒‒‒‒‒ ‒‒‒‒‒‒‒‒‒‒ ‒‒‒‒‒‒‒‒‒‒ ‒‒‒‒‒‒‒‒‒‒ ‒‒‒‒‒‒‒‒‒‒ ‒‒‒‒‒‒‒‒‒‒ ‒‒‒‒‒‒‒‒‒‒ ‒‒‒‒‒‒‒‒‒‒ ‒‒‒‒‒‒‒‒‒‒ ‒‒‒‒‒‒‒‒‒‒ ‒‒‒‒‒‒‒‒‒‒ ‒‒‒‒‒‒‒‒‒‒ ‒‒‒‒‒‒‒‒‒‒ ‒‒‒‒‒‒‒‒‒‒ ‒‒‒‒‒‒‒‒‒‒ ‒‒‒‒‒‒‒‒‒‒ ‒‒‒‒‒‒‒‒‒‒ ‒‒‒‒‒‒‒‒‒‒ ‒‒‒‒‒‒‒‒‒‒ ‒‒‒‒‒‒‒‒‒‒ ‒‒‒‒‒‒‒‒‒‒ ‒‒‒‒‒‒‒‒‒‒ ‒‒‒‒‒‒‒‒‒‒ ‒‒‒‒‒‒‒‒‒‒ ‒‒‒‒‒‒‒‒‒‒ ‒‒‒‒‒‒‒‒‒‒ ‒‒‒‒‒‒‒‒‒‒ ‒‒‒‒‒‒‒‒‒‒ ‒‒‒‒‒‒‒‒‒‒ ‒‒‒‒‒‒‒‒‒‒ ‒‒‒‒‒‒‒‒‒‒ ‒‒‒‒‒‒‒‒‒‒ ‒‒‒‒‒‒‒‒‒‒ ‒‒‒‒‒‒‒‒‒‒ ‒‒‒‒‒‒‒‒‒‒ ‒‒‒‒‒‒‒‒‒‒ ‒‒‒‒‒‒‒‒‒‒ ‒‒‒‒‒‒‒‒‒‒ ‒‒‒‒‒‒‒‒‒‒ ‒‒‒‒‒‒‒‒‒‒ ‒‒‒‒‒‒‒‒‒‒ ‒‒‒‒‒‒‒‒‒‒ ‒‒‒‒‒‒‒‒‒‒ ‒‒‒‒‒‒‒‒‒‒ ‒‒‒‒‒‒‒‒‒‒ ‒‒‒‒‒‒‒‒‒‒ ‒‒‒‒‒‒‒‒‒‒ ‒‒‒‒‒‒‒‒‒‒ ‒‒‒‒‒‒‒‒‒‒ ‒‒‒‒‒‒‒‒‒‒ ‒‒‒‒‒‒‒‒‒‒ ‒‒‒‒‒‒‒‒‒‒ ‒‒‒‒‒‒‒‒‒‒ ‒‒‒‒‒‒‒‒‒‒ ‒‒‒‒‒‒‒‒‒‒ ‒‒‒‒‒‒‒‒‒‒ ‒‒‒‒‒‒‒‒‒‒ ‒‒‒‒‒‒‒‒‒‒ ‒‒‒‒‒‒‒‒‒‒ ‒‒‒‒‒‒‒‒‒‒ ‒‒‒‒‒‒‒‒‒‒ ‒‒‒‒‒‒‒‒‒‒ ‒‒‒‒‒‒‒‒‒‒ ‒‒‒‒‒‒‒‒‒‒ ‒‒‒‒‒‒‒‒‒‒ ‒‒‒‒‒‒‒‒‒‒ ‒‒‒‒‒‒‒‒‒‒ ‒‒‒‒‒‒‒‒‒‒ ‒‒‒‒‒‒‒‒‒‒ ‒‒‒‒‒‒‒‒‒‒ ‒‒‒‒‒‒‒‒‒‒ ‒‒‒‒‒‒‒‒‒‒ ‒‒‒‒‒‒‒‒‒‒ ‒‒‒‒‒‒‒‒‒‒ ‒‒‒‒‒‒‒‒‒‒ ‒‒‒‒‒‒‒‒‒‒ ‒‒‒‒‒‒‒‒‒‒ ‒‒‒‒‒‒‒‒‒‒ ‒‒‒‒‒‒‒‒‒‒ ‒‒‒‒‒‒‒‒‒‒ ‒‒‒‒‒‒‒‒‒‒ ‒‒‒‒‒‒‒‒‒‒ ‒‒‒‒‒‒‒‒‒‒ ‒‒‒‒‒‒‒‒‒‒ ‒‒‒‒‒‒‒‒‒‒ ‒‒‒‒‒‒‒‒‒‒ ‒‒‒‒‒‒‒‒‒‒ ‒‒‒‒‒‒‒‒‒‒ ‒‒‒‒‒‒‒‒‒‒ ‒‒‒‒‒‒‒‒‒‒ ‒‒‒‒‒‒‒‒‒‒ ‒‒‒‒‒‒‒‒‒‒ ‒‒‒‒‒‒‒‒‒‒ ‒‒‒‒‒‒‒‒‒‒ ‒‒‒‒‒‒‒‒‒‒ ‒‒‒‒‒‒‒‒‒‒ ‒‒‒‒‒‒‒‒‒‒ ‒‒‒‒‒‒‒‒‒‒ ‒‒‒‒‒‒‒‒‒‒ ‒‒‒‒‒‒‒‒‒‒ ‒‒‒‒‒‒‒‒‒‒ ‒‒‒‒‒‒‒‒‒‒ ‒‒‒‒‒‒‒‒‒‒ ‒‒‒‒‒‒‒‒‒‒ ‒‒‒‒‒‒‒‒‒‒ ‒‒‒‒‒‒‒‒‒‒ ‒‒‒‒‒‒‒‒‒‒ ‒‒‒‒‒‒‒‒‒‒ ‒‒‒‒‒‒‒‒‒‒ ‒‒‒‒‒‒‒‒‒‒ ‒‒‒‒‒‒‒‒‒‒ ‒‒‒‒‒‒‒‒‒‒ ‒‒‒‒‒‒‒‒‒‒ ‒‒‒‒‒‒‒‒‒‒ ‒‒‒‒‒‒‒‒‒‒ ‒‒‒‒‒‒‒‒‒‒ ‒‒‒‒‒‒‒‒‒‒ ‒‒‒‒‒‒‒‒‒‒ ‒‒‒‒‒‒‒‒‒‒ ‒‒‒‒‒‒‒‒‒‒ ‒‒‒‒‒‒‒‒‒‒ ‒‒‒‒‒‒‒‒‒‒ ‒‒‒‒‒‒‒‒‒‒ ‒‒‒‒‒‒‒‒‒‒ ‒‒‒‒‒‒‒‒‒‒ ‒‒‒‒‒‒‒‒‒‒ ‒‒‒‒‒‒‒‒‒‒ ‒‒‒‒‒‒‒‒‒‒ ‒‒‒‒‒‒‒‒‒‒ ‒‒‒‒‒‒‒‒‒‒ ‒‒‒‒‒‒‒‒‒‒ ‒‒‒‒‒‒‒‒‒‒ ‒‒‒‒‒‒‒‒‒‒ ‒‒‒‒‒‒‒‒‒‒ ‒‒‒‒‒‒‒‒‒‒ ‒‒‒‒‒‒‒‒‒‒ ‒‒‒‒‒‒‒‒‒‒ ‒‒‒‒‒‒‒‒‒‒ ‒‒‒‒‒‒‒‒‒‒ ‒‒‒‒‒‒‒‒‒‒ ‒‒‒‒‒‒‒‒‒‒ ‒‒‒‒‒‒‒‒‒‒ ‒‒‒‒‒‒‒‒‒‒ ‒‒‒‒‒‒‒‒‒‒ ‒‒‒‒‒‒‒‒‒‒ ‒‒‒‒‒‒‒‒‒‒ ‒‒‒‒‒‒‒‒‒‒ ‒‒‒‒‒‒‒‒‒‒ ‒‒‒‒‒‒‒‒‒‒ ‒‒‒‒‒‒‒‒‒‒ ‒‒‒‒‒‒‒‒‒‒ ‒‒‒‒‒‒‒‒‒‒ ‒‒‒‒‒‒‒‒‒‒ ‒‒‒‒‒‒‒‒‒‒ ‒‒‒‒‒‒‒‒‒‒ ‒‒‒‒‒‒‒‒‒‒ ‒‒‒‒‒‒‒‒‒‒ ‒‒‒‒‒‒‒‒‒‒ ‒‒‒‒‒‒‒‒‒‒ ‒‒‒‒‒‒‒‒‒‒ ‒‒‒‒‒‒‒‒‒‒ ‒‒‒‒‒‒‒‒‒‒ ‒‒‒‒‒‒‒‒‒‒ ‒‒‒‒‒‒‒‒‒‒ ‒‒‒‒‒‒‒‒‒‒ ‒‒‒‒‒‒‒‒‒‒ ‒‒‒‒‒‒‒‒‒‒ ‒‒‒‒‒‒‒‒‒‒ ‒‒‒‒‒‒‒‒‒‒ ‒‒‒‒‒‒‒‒‒‒ ‒‒‒‒‒‒‒‒‒‒ ‒‒‒‒‒‒‒‒‒‒ ‒‒‒‒‒‒‒‒‒‒ ‒‒‒‒‒‒‒‒‒‒ ‒‒‒‒‒‒‒‒‒‒ ‒‒‒‒‒‒‒‒‒‒ ‒‒‒‒‒‒‒‒‒‒ ‒‒‒‒‒‒‒‒‒‒ ‒‒‒‒‒‒‒‒‒‒ ‒‒‒‒‒‒‒‒‒‒ ‒‒‒‒‒‒‒‒‒‒ ‒‒‒‒‒‒‒‒‒‒ ‒‒‒‒‒‒‒‒‒‒ ‒‒‒‒‒‒‒‒‒‒ ‒‒‒‒‒‒‒‒‒‒ ‒‒‒‒‒‒‒‒‒‒ ‒‒‒‒‒‒‒‒‒‒ ‒‒‒‒‒‒‒‒‒‒ ‒‒‒‒‒‒‒‒‒‒ ‒‒‒‒‒‒‒‒‒‒ ‒‒‒‒‒‒‒‒‒‒ ‒‒‒‒‒‒‒‒‒‒ ‒‒‒‒‒‒‒‒‒‒ ‒‒‒‒‒‒‒‒‒‒ ‒‒‒‒‒‒‒‒‒‒ ‒‒‒‒‒‒‒‒‒‒ ‒‒‒‒‒‒‒‒‒‒ ‒‒‒‒‒‒‒‒‒‒ ‒‒‒‒‒‒‒‒‒‒ ‒‒‒‒‒‒‒‒‒‒ ‒‒‒‒‒‒‒‒‒‒ ‒‒‒‒‒‒‒‒‒‒ ‒‒‒‒‒‒‒‒‒‒ ‒‒‒‒‒‒‒‒‒‒ ‒‒‒‒‒‒‒‒‒‒ ‒‒‒‒‒‒‒‒‒‒ ‒‒‒‒‒‒‒‒‒‒ ‒‒‒‒‒‒‒‒‒‒ ‒‒‒‒‒‒‒‒‒‒ ‒‒‒‒‒‒‒‒‒‒ ‒‒‒‒‒‒‒‒‒‒ ‒‒‒‒‒‒‒‒‒‒ ‒
‒ ‒‒‒‒‒‒‒‒‒‒ ‒‒‒‒‒‒‒‒‒‒ ‒‒‒‒‒‒‒‒‒‒ ‒‒‒‒‒‒‒‒‒‒ ‒‒‒‒‒‒‒‒‒‒ ‒‒‒‒‒‒‒‒‒‒ ‒‒‒‒‒‒‒‒‒‒ ‒‒‒‒‒‒‒‒‒‒ ‒‒‒‒‒‒‒‒‒‒ ‒‒‒‒‒‒‒‒‒‒ ‒‒‒‒‒‒‒‒‒‒ ‒‒‒‒‒‒‒‒‒‒ ‒‒‒‒‒‒‒‒‒‒ ‒‒‒‒‒‒‒‒‒‒ ‒‒‒‒‒‒‒‒‒‒ ‒‒‒‒‒‒‒‒‒‒ ‒‒‒‒‒‒‒‒‒‒ ‒‒‒‒‒‒‒‒‒‒ ‒‒‒‒‒‒‒‒‒‒ ‒‒‒‒‒‒‒‒‒‒ ‒‒‒‒‒‒‒‒‒‒ ‒‒‒‒‒‒‒‒‒‒ ‒‒‒‒‒‒‒‒‒‒ ‒‒‒‒‒‒‒‒‒‒ ‒‒‒‒‒‒‒‒‒‒ ‒‒‒‒‒‒‒‒‒‒ ‒‒‒‒‒‒‒‒‒‒ ‒‒‒‒‒‒‒‒‒‒ ‒‒‒‒‒‒‒‒‒‒ ‒‒‒‒‒‒‒‒‒‒ ‒‒‒‒‒‒‒‒‒‒ ‒‒‒‒‒‒‒‒‒‒ ‒‒‒‒‒‒‒‒‒‒ ‒‒‒‒‒‒‒‒‒‒ ‒‒‒‒‒‒‒‒‒‒ ‒‒‒‒‒‒‒‒‒‒ ‒‒‒‒‒‒‒‒‒‒ ‒‒‒‒‒‒‒‒‒‒ ‒‒‒‒‒‒‒‒‒‒ ‒‒‒‒‒‒‒‒‒‒ ‒‒‒‒‒‒‒‒‒‒ ‒‒‒‒‒‒‒‒‒‒ ‒‒‒‒‒‒‒‒‒‒ ‒‒‒‒‒‒‒‒‒‒ ‒‒‒‒‒‒‒‒‒‒ ‒‒‒‒‒‒‒‒‒‒ ‒‒‒‒‒‒‒‒‒‒ ‒‒‒‒‒‒‒‒‒‒ ‒‒‒‒‒‒‒‒‒‒ ‒‒‒‒‒‒‒‒‒‒ ‒‒‒‒‒‒‒‒‒‒ ‒‒‒‒‒‒‒‒‒‒ ‒‒‒‒‒‒‒‒‒‒ ‒‒‒‒‒‒‒‒‒‒ ‒‒‒‒‒‒‒‒‒‒ ‒‒‒‒‒‒‒‒‒‒ ‒‒‒‒‒‒‒‒‒‒ ‒‒‒‒‒‒‒‒‒‒ ‒‒‒‒‒‒‒‒‒‒ ‒‒‒‒‒‒‒‒‒‒ ‒‒‒‒‒‒‒‒‒‒ ‒‒‒‒‒‒‒‒‒‒ ‒‒‒‒‒‒‒‒‒‒ ‒‒‒‒‒‒‒‒‒‒ ‒‒‒‒‒‒‒‒‒‒ ‒‒‒‒‒‒‒‒‒‒ ‒‒‒‒‒‒‒‒‒‒ ‒‒‒‒‒‒‒‒‒‒ ‒‒‒‒‒‒‒‒‒‒ ‒‒‒‒‒‒‒‒‒‒ ‒‒‒‒‒‒‒‒‒‒ ‒‒‒‒‒‒‒‒‒‒ ‒‒‒‒‒‒‒‒‒‒ ‒‒‒‒‒‒‒‒‒‒ ‒‒‒‒‒‒‒‒‒‒ ‒‒‒‒‒‒‒‒‒‒ ‒‒‒‒‒‒‒‒‒‒ ‒‒‒‒‒‒‒‒‒‒ ‒‒‒‒‒‒‒‒‒‒ ‒‒‒‒‒‒‒‒‒‒ ‒‒‒‒‒‒‒‒‒‒ ‒‒‒‒‒‒‒‒‒‒ ‒‒‒‒‒‒‒‒‒‒ ‒‒‒‒‒‒‒‒‒‒ ‒‒‒‒‒‒‒‒‒‒ ‒‒‒‒‒‒‒‒‒‒ ‒‒‒‒‒‒‒‒‒‒ ‒‒‒‒‒‒‒‒‒‒ ‒‒‒‒‒‒‒‒‒‒ ‒‒‒‒‒‒‒‒‒‒ ‒‒‒‒‒‒‒‒‒‒ ‒‒‒‒‒‒‒‒‒‒ ‒‒‒‒‒‒‒‒‒‒ ‒‒‒‒‒‒‒‒‒‒ ‒‒‒‒‒‒‒‒‒‒ ‒‒‒‒‒‒‒‒‒‒ ‒‒‒‒‒‒‒‒‒‒ ‒‒‒‒‒‒‒‒‒‒ ‒‒‒‒‒‒‒‒‒‒ ‒‒‒‒‒‒‒‒‒‒ ‒‒‒‒‒‒‒‒‒‒ ‒‒‒‒‒‒‒‒‒‒ ‒‒‒‒‒‒‒‒‒‒ ‒‒‒‒‒‒‒‒‒‒ ‒‒‒‒‒‒‒‒‒‒ ‒‒‒‒‒‒‒‒‒‒ ‒‒‒‒‒‒‒‒‒‒ ‒‒‒‒‒‒‒‒‒‒ ‒‒‒‒‒‒‒‒‒‒ ‒‒‒‒‒‒‒‒‒‒ ‒‒‒‒‒‒‒‒‒‒ ‒‒‒‒‒‒‒‒‒‒ ‒‒‒‒‒‒‒‒‒‒ ‒‒‒‒‒‒‒‒‒‒ ‒‒‒‒‒‒‒‒‒‒ ‒‒‒‒‒‒‒‒‒‒ ‒‒‒‒‒‒‒‒‒‒ ‒‒‒‒‒‒‒‒‒‒ ‒‒‒‒‒‒‒‒‒‒ ‒‒‒‒‒‒‒‒‒‒ ‒‒‒‒‒‒‒‒‒‒ ‒‒‒‒‒‒‒‒‒‒ ‒‒‒‒‒‒‒‒‒‒ ‒‒‒‒‒‒‒‒‒‒ ‒‒‒‒‒‒‒‒‒‒ ‒‒‒‒‒‒‒‒‒‒ ‒‒‒‒‒‒‒‒‒‒ ‒‒‒‒‒‒‒‒‒‒ ‒‒‒‒‒‒‒‒‒‒ ‒‒‒‒‒‒‒‒‒‒ ‒‒‒‒‒‒‒‒‒‒ ‒‒‒‒‒‒‒‒‒‒ ‒‒‒‒‒‒‒‒‒‒ ‒‒‒‒‒‒‒‒‒‒ ‒‒‒‒‒‒‒‒‒‒ ‒‒‒‒‒‒‒‒‒‒ ‒‒‒‒‒‒‒‒‒‒ ‒‒‒‒‒‒‒‒‒‒ ‒‒‒‒‒‒‒‒‒‒ ‒‒‒‒‒‒‒‒‒‒ ‒‒‒‒‒‒‒‒‒‒ ‒‒‒‒‒‒‒‒‒‒ ‒‒‒‒‒‒‒‒‒‒ ‒‒‒‒‒‒‒‒‒‒ ‒‒‒‒‒‒‒‒‒‒ ‒‒‒‒‒‒‒‒‒‒ ‒‒‒‒‒‒‒‒‒‒ ‒‒‒‒‒‒‒‒‒‒ ‒‒‒‒‒‒‒‒‒‒ ‒‒‒‒‒‒‒‒‒‒ ‒‒‒‒‒‒‒‒‒‒ ‒‒‒‒‒‒‒‒‒‒ ‒‒‒‒‒‒‒‒‒‒ ‒‒‒‒‒‒‒‒‒‒ ‒‒‒‒‒‒‒‒‒‒ ‒‒‒‒‒‒‒‒‒‒ ‒‒‒‒‒‒‒‒‒‒ ‒‒‒‒‒‒‒‒‒‒ ‒‒‒‒‒‒‒‒‒‒ ‒‒‒‒‒‒‒‒‒‒ ‒‒‒‒‒‒‒‒‒‒ ‒‒‒‒‒‒‒‒‒‒ ‒‒‒‒‒‒‒‒‒‒ ‒‒‒‒‒‒‒‒‒‒ ‒‒‒‒‒‒‒‒‒‒ ‒‒‒‒‒‒‒‒‒‒ ‒‒‒‒‒‒‒‒‒‒ ‒‒‒‒‒‒‒‒‒‒ ‒‒‒‒‒‒‒‒‒‒ ‒‒‒‒‒‒‒‒‒‒ ‒‒‒‒‒‒‒‒‒‒ ‒‒‒‒‒‒‒‒‒‒ ‒‒‒‒‒‒‒‒‒‒ ‒‒‒‒‒‒‒‒‒‒ ‒‒‒‒‒‒‒‒‒‒ ‒‒‒‒‒‒‒‒‒‒ ‒‒‒‒‒‒‒‒‒‒ ‒‒‒‒‒‒‒‒‒‒ ‒‒‒‒‒‒‒‒‒‒ ‒‒‒‒‒‒‒‒‒‒ ‒‒‒‒‒‒‒‒‒‒ ‒‒‒‒‒‒‒‒‒‒ ‒‒‒‒‒‒‒‒‒‒ ‒‒‒‒‒‒‒‒‒‒ ‒‒‒‒‒‒‒‒‒‒ ‒‒‒‒‒‒‒‒‒‒ ‒‒‒‒‒‒‒‒‒‒ ‒‒‒‒‒‒‒‒‒‒ ‒‒‒‒‒‒‒‒‒‒ ‒‒‒‒‒‒‒‒‒‒ ‒‒‒‒‒‒‒‒‒‒ ‒‒‒‒‒‒‒‒‒‒ ‒‒‒‒‒‒‒‒‒‒ ‒‒‒‒‒‒‒‒‒‒ ‒‒‒‒‒‒‒‒‒‒ ‒‒‒‒‒‒‒‒‒‒ ‒‒‒‒‒‒‒‒‒‒ ‒‒‒‒‒‒‒‒‒‒ ‒‒‒‒‒‒‒‒‒‒ ‒‒‒‒‒‒‒‒‒‒ ‒‒‒‒‒‒‒‒‒‒ ‒‒‒‒‒‒‒‒‒‒ ‒‒‒‒‒‒‒‒‒‒ ‒‒‒‒‒‒‒‒‒‒ ‒‒‒‒‒‒‒‒‒‒ ‒‒‒‒‒‒‒‒‒‒ ‒‒‒‒‒‒‒‒‒‒ ‒‒‒‒‒‒‒‒‒‒ ‒‒‒‒‒‒‒‒‒‒
‒‒‒‒‒‒‒‒‒‒ ‒‒‒‒‒‒‒‒‒‒ ‒‒‒‒‒‒‒‒‒‒ ‒‒‒‒‒‒‒‒‒‒ ‒‒‒‒‒‒‒‒‒‒ ‒‒‒‒‒‒‒‒‒‒ ‒‒‒‒‒‒‒‒‒‒ ‒‒‒‒‒‒‒‒‒‒ ‒‒‒‒‒‒‒‒‒‒ ‒‒‒‒‒‒‒‒‒‒ ‒‒‒‒‒‒‒‒‒‒ ‒‒‒‒‒‒‒‒‒‒ ‒‒‒‒‒‒‒‒‒‒ ‒‒‒‒‒‒‒‒‒‒ ‒‒‒‒‒‒‒‒‒‒ ‒‒‒‒‒‒‒‒‒‒ ‒‒‒‒‒‒‒‒‒‒ ‒‒‒‒‒‒‒‒‒‒ ‒‒‒‒‒‒‒‒‒‒ ‒‒‒‒‒‒‒‒‒‒ ‒‒‒‒‒‒‒‒‒‒ ‒‒‒‒‒‒‒‒‒‒ ‒‒‒‒‒‒‒‒‒‒ ‒‒‒‒‒‒‒‒‒‒ ‒‒‒‒‒‒‒‒‒‒ ‒‒‒‒‒‒‒‒‒‒ ‒‒‒‒‒‒‒‒‒‒ ‒‒‒‒‒‒‒‒‒‒ ‒‒‒‒‒‒‒‒‒‒ ‒‒‒‒‒‒‒‒‒‒ ‒‒‒‒‒‒‒‒‒‒ ‒‒‒‒‒‒‒‒‒‒ ‒‒‒‒‒‒‒‒‒‒ ‒‒‒‒‒‒‒‒‒‒ ‒‒‒‒‒‒‒‒‒‒ ‒‒‒‒‒‒‒‒‒‒ ‒‒‒‒‒‒‒‒‒‒ ‒‒‒‒‒‒‒‒‒‒ ‒‒‒‒‒‒‒‒‒‒ ‒‒‒‒‒‒‒‒‒‒ ‒‒‒‒‒‒‒‒‒‒ ‒‒‒‒‒‒‒‒‒‒ ‒‒‒‒‒‒‒‒‒‒ ‒‒‒‒‒‒‒‒‒‒ ‒‒‒‒‒‒‒‒‒‒ ‒‒‒‒‒‒‒‒‒‒ ‒‒‒‒‒‒‒‒‒‒ ‒‒‒‒‒‒‒‒‒‒ ‒‒‒‒‒‒‒‒‒‒ ‒‒‒‒‒‒‒‒‒‒ ‒‒‒‒‒‒‒‒‒‒ ‒‒‒‒‒‒‒‒‒‒ ‒‒‒‒‒‒‒‒‒‒ ‒‒‒‒‒‒‒‒‒‒ ‒‒‒‒‒‒‒‒‒‒ ‒‒‒‒‒‒‒‒‒‒ ‒‒‒‒‒‒‒‒‒‒ ‒‒‒‒‒‒‒‒‒‒ ‒‒‒‒‒‒‒‒‒‒ ‒‒‒‒‒‒‒‒‒‒ ‒‒‒‒‒‒‒‒‒‒ ‒‒‒‒‒‒‒‒‒‒ ‒‒‒‒‒‒‒‒‒‒ ‒‒‒‒‒‒‒‒‒‒ ‒‒‒‒‒‒‒‒‒‒ ‒‒‒‒‒‒‒‒‒‒ ‒‒‒‒‒‒‒‒‒‒ ‒‒‒‒‒‒‒‒‒‒ ‒‒‒‒‒‒‒‒‒‒ ‒‒‒‒‒‒‒‒‒‒ ‒‒‒‒‒‒‒‒‒‒ ‒‒‒‒‒‒‒‒‒‒ ‒‒‒‒‒‒‒‒‒‒ ‒‒‒‒‒‒‒‒‒‒ ‒‒‒‒‒‒‒‒‒‒ ‒‒‒‒‒‒‒‒‒‒ ‒‒‒‒‒‒‒‒‒‒ ‒‒‒‒‒‒‒‒‒‒ ‒‒‒‒‒‒‒‒‒‒ ‒‒‒‒‒‒‒‒‒‒ ‒‒‒‒‒‒‒‒‒‒ ‒‒‒‒‒‒‒‒‒‒ ‒‒‒‒‒‒‒‒‒‒ ‒‒‒‒‒‒‒‒‒‒ ‒‒‒‒‒‒‒‒‒‒ ‒‒‒‒‒‒‒‒‒‒ ‒‒‒‒‒‒‒‒‒‒ ‒‒‒‒‒‒‒‒‒‒ ‒‒‒‒‒‒‒‒‒‒ ‒‒‒‒‒‒‒‒‒‒ ‒‒‒‒‒‒‒‒‒‒ ‒‒‒‒‒‒‒‒‒‒ ‒‒‒‒‒‒‒‒‒‒ ‒‒‒‒‒‒‒‒‒‒ ‒‒‒‒‒‒‒‒‒‒ ‒‒‒‒‒‒‒‒‒‒ ‒‒‒‒‒‒‒‒‒‒ ‒‒‒‒‒‒‒‒‒‒ ‒‒‒‒‒‒‒‒‒‒ ‒‒‒‒‒‒‒‒‒‒ ‒‒‒‒‒‒‒‒‒‒ ‒‒‒‒‒‒‒‒‒‒ ‒‒‒‒‒‒‒‒‒‒ ‒‒‒‒‒‒‒‒‒‒ ‒‒‒‒‒‒‒‒‒‒ ‒‒‒‒‒‒‒‒‒‒ ‒‒‒‒‒‒‒‒‒‒ ‒‒‒‒‒‒‒‒‒‒ ‒‒‒‒‒‒‒‒‒‒ ‒‒‒‒‒‒‒‒‒‒ ‒‒‒‒‒‒‒‒‒‒ ‒‒‒‒‒‒‒‒‒‒ ‒‒‒‒‒‒‒‒‒‒ ‒‒‒‒‒‒‒‒‒‒ ‒‒‒‒‒‒‒‒‒‒ ‒‒‒‒‒‒‒‒‒‒ ‒‒‒‒‒‒‒‒‒‒ ‒‒‒‒‒‒‒‒‒‒ ‒‒‒‒‒‒‒‒‒‒ ‒‒‒‒‒‒‒‒‒‒ ‒‒‒‒‒‒‒‒‒‒ ‒‒‒‒‒‒‒‒‒‒ ‒‒‒‒‒‒‒‒‒‒ ‒‒‒‒‒‒‒‒‒‒ ‒‒‒‒‒‒‒‒‒‒ ‒‒‒‒‒‒‒‒‒‒ ‒‒‒‒‒‒‒‒‒‒ ‒‒‒‒‒‒‒‒‒‒ ‒‒‒‒‒‒‒‒‒‒ ‒‒‒‒‒‒‒‒‒‒ ‒‒‒‒‒‒‒‒‒‒ ‒‒‒‒‒‒‒‒‒‒ ‒‒‒‒‒‒‒‒‒‒ ‒‒‒‒‒‒‒‒‒‒ ‒‒‒‒‒‒‒‒‒‒ ‒‒‒‒‒‒‒‒‒‒ ‒‒‒‒‒‒‒‒‒‒ ‒‒‒‒‒‒‒‒‒‒ ‒‒‒‒‒‒‒‒‒‒ ‒‒‒‒‒‒‒‒‒‒ ‒‒‒‒‒‒‒‒‒‒ ‒‒‒‒‒‒‒‒‒‒ ‒‒‒‒‒‒‒‒‒‒ ‒‒‒‒‒‒‒‒‒‒ ‒‒‒‒‒‒‒‒‒‒ ‒‒‒‒‒‒‒‒‒‒ ‒‒‒‒‒‒‒‒‒‒ ‒‒‒‒‒‒‒‒‒‒ ‒‒‒‒‒‒‒‒‒‒ ‒‒‒‒‒‒‒‒‒‒ ‒‒‒‒‒‒‒‒‒‒ ‒‒‒‒‒‒‒‒‒‒ ‒‒‒‒‒‒‒‒‒‒ ‒‒‒‒‒‒‒‒‒‒ ‒‒‒‒‒‒‒‒‒‒ ‒‒‒‒‒‒‒‒‒‒ ‒‒‒‒‒‒‒‒‒‒ ‒‒‒‒‒‒‒‒‒‒ ‒‒‒‒‒‒‒‒‒‒ ‒‒‒‒‒‒‒‒‒‒ ‒‒‒‒‒‒‒‒‒‒ ‒‒‒‒‒‒‒‒‒‒ ‒‒‒‒‒‒‒‒‒‒ ‒‒‒‒‒‒‒‒‒‒ ‒‒‒‒‒‒‒‒‒‒ ‒‒‒‒‒‒‒‒‒‒ ‒‒‒‒‒‒‒‒‒‒ ‒‒‒‒‒‒‒‒‒‒ ‒‒‒‒‒‒‒‒‒‒ ‒‒‒‒‒‒‒‒‒‒ ‒‒‒‒‒‒‒‒‒‒ ‒‒‒‒‒‒‒‒‒‒ ‒‒‒‒‒‒‒‒‒‒ ‒‒‒‒‒‒‒‒‒‒ ‒‒‒‒‒‒‒‒‒‒ ‒‒‒‒‒‒‒‒‒‒ ‒‒‒‒‒‒‒‒‒‒ ‒‒‒‒‒‒‒‒‒‒ ‒‒‒‒‒‒‒‒‒‒ ‒‒‒‒‒‒‒‒‒‒ ‒‒‒‒‒‒‒‒‒‒ ‒‒‒‒‒‒‒‒‒‒ ‒‒‒‒‒‒‒‒‒‒ ‒‒‒‒‒‒‒‒‒‒ ‒‒‒‒‒‒‒‒‒‒ ‒‒‒‒‒‒‒‒‒‒ ‒‒‒‒‒‒‒‒‒‒ ‒‒‒‒‒‒‒‒‒‒ ‒‒‒‒‒‒‒‒‒‒ ‒‒‒‒‒‒‒‒‒‒ ‒‒‒‒‒‒‒‒‒‒ ‒‒‒‒‒‒‒‒‒‒ ‒‒‒‒‒‒‒‒‒‒ ‒‒‒‒‒‒‒‒‒‒ ‒‒‒‒‒‒‒‒‒‒ ‒‒‒‒‒‒‒‒‒‒ ‒‒‒‒‒‒‒‒‒‒ ‒‒‒‒‒‒‒‒‒‒ ‒‒‒‒‒‒‒‒‒‒ ‒‒‒‒‒‒‒‒‒‒
‒‒‒‒‒‒‒‒ ‒‒‒‒‒‒‒‒‒‒ ‒‒‒‒‒‒‒‒‒‒ ‒‒‒‒‒‒‒‒‒‒ ‒‒‒‒‒‒‒‒‒‒ ‒‒‒‒‒‒‒‒‒‒ ‒‒‒‒‒‒‒‒‒‒ ‒‒‒‒‒‒‒‒‒‒ ‒‒‒‒‒‒‒‒‒‒ ‒‒‒‒‒‒‒‒‒‒ ‒‒‒‒‒‒‒‒‒‒ ‒‒‒‒‒‒‒‒‒‒ ‒‒‒‒‒‒‒‒‒‒ ‒‒‒‒‒‒‒‒‒‒ ‒‒‒‒‒‒‒‒‒‒ ‒‒‒‒‒‒‒‒‒‒ ‒‒‒‒‒‒‒‒‒‒ ‒‒‒‒‒‒‒‒‒‒ ‒‒‒‒‒‒‒‒‒‒ ‒‒‒‒‒‒‒‒‒‒ ‒‒‒‒‒‒‒‒‒‒ ‒‒‒‒‒‒‒‒‒‒ ‒‒‒‒‒‒‒‒‒‒ ‒‒‒‒‒‒‒‒‒‒ ‒‒‒‒‒‒‒‒‒‒ ‒‒‒‒‒‒‒‒‒‒ ‒‒‒‒‒‒‒‒‒‒ ‒‒‒‒‒‒‒‒‒‒ ‒‒‒‒‒‒‒‒‒‒ ‒‒‒‒‒‒‒‒‒‒ ‒‒‒‒‒‒‒‒‒‒ ‒‒‒‒‒‒‒‒‒‒ ‒‒‒‒‒‒‒‒‒‒ ‒‒‒‒‒‒‒‒‒‒ ‒‒‒‒‒‒‒‒‒‒ ‒‒‒‒‒‒‒‒‒‒ ‒‒‒‒‒‒‒‒‒‒ ‒‒‒‒‒‒‒‒‒‒ ‒‒‒‒‒‒‒‒‒‒ ‒‒‒‒‒‒‒‒‒‒ ‒‒‒‒‒‒‒‒‒‒ ‒‒‒‒‒‒‒‒‒‒ ‒‒‒‒‒‒‒‒‒‒ ‒‒‒‒‒‒‒‒‒‒ ‒‒‒‒‒‒‒‒‒‒ ‒‒‒‒‒‒‒‒‒‒ ‒‒‒‒‒‒‒‒‒‒ ‒‒‒‒‒‒‒‒‒‒ ‒‒‒‒‒‒‒‒‒‒ ‒‒‒‒‒‒‒‒‒‒ ‒‒‒‒‒‒‒‒‒‒ ‒‒‒‒‒‒‒‒‒‒ ‒‒‒‒‒‒‒‒‒‒ ‒‒‒‒‒‒‒‒‒‒ ‒‒‒‒‒‒‒‒‒‒ ‒‒‒‒‒‒‒‒‒‒ ‒‒‒‒‒‒‒‒‒‒ ‒‒‒‒‒‒‒‒‒‒ ‒‒‒‒‒‒‒‒‒‒ ‒‒‒‒‒‒‒‒‒‒ ‒‒‒‒‒‒‒‒‒‒ ‒‒‒‒‒‒‒‒‒‒ ‒‒‒‒‒‒‒‒‒‒ ‒‒‒‒‒‒‒‒‒‒ ‒‒‒‒‒‒‒‒‒‒ ‒‒‒‒‒‒‒‒‒‒ ‒‒‒‒‒‒‒‒‒‒ ‒‒‒‒‒‒‒‒‒‒ ‒‒‒‒‒‒‒‒‒‒ ‒‒‒‒‒‒‒‒‒‒ ‒‒‒‒‒‒‒‒‒‒ ‒‒‒‒‒‒‒‒‒‒ ‒‒‒‒‒‒‒‒‒‒ ‒‒‒‒‒‒‒‒‒‒ ‒‒‒‒‒‒‒‒‒‒ ‒‒‒‒‒‒‒‒‒‒ ‒‒‒‒‒‒‒‒‒‒ ‒‒‒‒‒‒‒‒‒‒ ‒‒‒‒‒‒‒‒‒‒ ‒‒‒‒‒‒‒‒‒‒ ‒‒‒‒‒‒‒‒‒‒ ‒‒‒‒‒‒‒‒‒‒ ‒‒‒‒‒‒‒‒‒‒ ‒‒‒‒‒‒‒‒‒‒ ‒‒‒‒‒‒‒‒‒‒ ‒‒‒‒‒‒‒‒‒‒ ‒‒‒‒‒‒‒‒‒‒ ‒‒‒‒‒‒‒‒‒‒ ‒‒‒‒‒‒‒‒‒‒ ‒‒‒‒‒‒‒‒‒‒ ‒‒‒‒‒‒‒‒‒‒ ‒‒‒‒‒‒‒‒‒‒ ‒‒‒‒‒‒‒‒‒‒ ‒‒‒‒‒‒‒‒‒‒ ‒‒‒‒‒‒‒‒‒‒ ‒‒‒‒‒‒‒‒‒‒ ‒‒‒‒‒‒‒‒‒‒ ‒‒‒‒‒‒‒‒‒‒ ‒‒‒‒‒‒‒‒‒‒ ‒‒‒‒‒‒‒‒‒‒ ‒‒‒‒‒‒‒‒‒‒ ‒‒‒‒‒‒‒‒‒‒ ‒‒‒‒‒‒‒‒‒‒ ‒‒‒‒‒‒‒‒‒‒ ‒‒‒‒‒‒‒‒‒‒ ‒‒‒‒‒‒‒‒‒‒ ‒‒‒‒‒‒‒‒‒‒ ‒‒‒‒‒‒‒‒‒‒ ‒‒‒‒‒‒‒‒‒‒ ‒‒‒‒‒‒‒‒‒‒ ‒‒‒‒‒‒‒‒‒‒ ‒‒‒‒‒‒‒‒‒‒ ‒‒‒‒‒‒‒‒‒‒ ‒‒‒‒‒‒‒‒‒‒ ‒‒‒‒‒‒‒‒‒‒ ‒‒‒‒‒‒‒‒‒‒ ‒‒‒‒‒‒‒‒‒‒ ‒‒‒‒‒‒‒‒‒‒ ‒‒‒‒‒‒‒‒‒‒ ‒‒‒‒‒‒‒‒‒‒ ‒‒‒‒‒‒‒‒‒‒ ‒‒‒‒‒‒‒‒‒‒ ‒‒‒‒‒‒‒‒‒‒ ‒‒‒‒‒‒‒‒‒‒ ‒‒‒‒‒‒‒‒‒‒ ‒‒‒‒‒‒‒‒‒‒ ‒‒‒‒‒‒‒‒‒‒ ‒‒‒‒‒‒‒‒‒‒ ‒‒‒‒‒‒‒‒‒‒ ‒‒‒‒‒‒‒‒‒‒ ‒‒‒‒‒‒‒‒‒‒ ‒‒‒‒‒‒‒‒‒‒ ‒‒‒‒‒‒‒‒‒‒ ‒‒‒‒‒‒‒‒‒‒ ‒‒‒‒‒‒‒‒‒‒ ‒‒‒‒‒‒‒‒‒‒ ‒‒‒‒‒‒‒‒‒‒ ‒‒‒‒‒‒‒‒‒‒ ‒‒‒‒‒‒‒‒‒‒ ‒‒‒‒‒‒‒‒‒‒ ‒‒‒‒‒‒‒‒‒‒ ‒‒‒‒‒‒‒‒‒‒ ‒‒‒‒‒‒‒‒‒‒ ‒‒‒‒‒‒‒‒‒‒ ‒‒‒‒‒‒‒‒‒‒ ‒‒‒‒‒‒‒‒‒‒ ‒‒‒‒‒‒‒‒‒‒ ‒‒‒‒‒‒‒‒‒‒ ‒‒‒‒‒‒‒‒‒‒ ‒‒‒‒‒‒‒‒‒‒ ‒‒‒‒‒‒‒‒‒‒ ‒‒‒‒‒‒‒‒‒‒ ‒‒‒‒‒‒‒‒‒‒ ‒‒‒‒‒‒‒‒‒‒ ‒‒‒‒‒‒‒‒‒‒ ‒‒‒‒‒‒‒‒‒‒ ‒‒‒‒‒‒‒‒‒‒ ‒‒‒‒‒‒‒‒‒‒ ‒‒‒‒‒‒‒‒‒‒ ‒‒‒‒‒‒‒‒‒‒ ‒‒‒‒‒‒‒‒‒‒ ‒‒‒‒‒‒‒‒‒‒ ‒‒‒‒‒‒‒‒‒‒ ‒‒‒‒‒‒‒‒‒‒ ‒‒‒‒‒‒‒‒‒‒ ‒‒‒‒‒‒‒‒‒‒ ‒‒‒‒‒‒‒‒‒‒ ‒‒‒‒‒‒‒‒‒‒ ‒‒‒‒‒‒‒‒‒‒ ‒‒‒‒‒‒‒‒‒‒ ‒‒‒‒‒‒‒‒‒‒ ‒‒‒‒‒‒‒‒‒‒ ‒‒‒‒‒‒‒‒‒‒ ‒‒‒‒‒‒‒‒‒‒ ‒‒‒‒‒‒‒‒‒‒ ‒‒‒‒‒‒‒‒‒‒ ‒‒‒‒‒‒‒‒‒‒ ‒‒‒‒‒‒‒‒‒‒ ‒‒‒‒‒‒‒‒‒‒ ‒‒‒‒‒‒‒‒‒‒ ‒‒‒‒‒‒‒‒‒‒ ‒‒‒‒‒‒‒‒‒‒ ‒‒‒‒‒‒‒‒‒‒ ‒‒‒‒‒‒‒‒‒‒ ‒‒‒‒‒‒‒‒‒‒ ‒‒‒‒‒‒‒‒‒‒ ‒‒‒‒‒‒‒‒‒‒ ‒‒‒‒‒‒‒‒‒‒ ‒‒‒‒‒‒‒‒‒‒ ‒‒‒‒‒‒‒‒‒‒ ‒‒‒‒‒‒‒‒‒‒ ‒‒‒‒‒‒‒‒‒‒ ‒‒‒‒‒‒‒‒‒‒ ‒‒‒‒‒‒‒‒‒‒ ‒‒‒‒‒‒‒‒‒‒ ‒‒‒‒‒‒‒‒‒‒ ‒‒‒‒‒‒‒‒‒‒ ‒‒‒‒‒‒‒‒‒‒ ‒‒‒‒‒‒‒‒‒‒ ‒‒‒‒‒‒‒‒‒‒ ‒‒‒‒‒‒‒‒‒‒ ‒‒‒‒‒‒‒‒‒‒ ‒‒‒‒‒‒‒‒‒‒ ‒‒‒‒‒‒‒‒‒‒ ‒‒‒‒‒‒‒‒‒‒ ‒‒‒‒‒‒‒‒‒‒ ‒‒‒‒‒‒‒‒‒‒ ‒‒‒‒‒‒‒‒‒‒ ‒‒‒‒‒‒‒‒‒‒ ‒‒‒‒‒‒‒‒‒‒ ‒‒‒‒‒‒‒‒‒‒ ‒‒‒‒‒‒‒‒‒‒ ‒‒‒‒‒‒‒‒‒‒ ‒‒‒‒‒‒‒‒‒‒ ‒‒‒‒‒‒‒‒‒‒ ‒‒‒‒‒‒‒‒‒‒ ‒‒‒‒‒‒‒‒‒‒ ‒‒‒‒‒‒‒‒‒‒ ‒‒‒‒‒‒‒‒‒‒ ‒‒‒‒‒‒‒‒‒‒ ‒‒‒‒‒‒‒‒‒‒ ‒‒‒‒‒‒‒‒‒‒ ‒‒‒‒‒‒‒‒‒‒ ‒‒‒‒‒‒‒‒‒‒ ‒‒‒‒‒‒‒‒‒‒ ‒‒‒‒‒‒‒‒‒‒ ‒‒‒‒‒‒‒‒‒‒ ‒‒‒‒‒‒‒‒‒‒ ‒‒‒‒‒‒‒‒‒‒ ‒‒‒‒‒‒‒‒‒‒ ‒‒‒‒‒‒‒‒‒‒ ‒‒‒‒‒‒‒‒‒‒ ‒‒‒‒‒‒‒‒‒‒ ‒‒‒‒‒‒‒‒‒‒ ‒‒‒‒‒‒‒‒‒‒ ‒‒‒‒‒‒‒‒‒‒ ‒‒‒‒‒‒
‒‒‒‒‒‒ ‒‒‒‒‒‒‒‒‒‒ ‒‒‒‒‒‒‒‒‒‒ ‒‒‒‒‒‒‒‒‒‒ ‒‒‒‒‒‒‒‒‒‒ ‒‒‒‒‒‒‒‒‒‒ ‒‒‒‒‒‒‒‒‒‒ ‒‒‒‒‒‒‒‒‒‒ ‒‒‒‒‒‒‒‒‒‒ ‒‒‒‒‒‒‒‒‒‒ ‒‒‒‒‒‒‒‒‒‒ ‒‒‒‒‒‒‒‒‒‒ ‒‒‒‒‒‒‒‒‒‒ ‒‒‒‒‒‒‒‒‒‒ ‒‒‒‒‒‒‒‒‒‒ ‒‒‒‒‒‒‒‒‒‒ ‒‒‒‒‒‒‒‒‒‒ ‒‒‒‒‒‒‒‒‒‒ ‒‒‒‒‒‒‒‒‒‒ ‒‒‒‒‒‒‒‒‒‒ ‒‒‒‒‒‒‒‒‒‒ ‒‒‒‒‒‒‒‒‒‒ ‒‒‒‒‒‒‒‒‒‒ ‒‒‒‒‒‒‒‒‒‒ ‒‒‒‒‒‒‒‒‒‒ ‒‒‒‒‒‒‒‒‒‒ ‒‒‒‒‒‒‒‒‒‒ ‒‒‒‒‒‒‒‒‒‒ ‒‒‒‒‒‒‒‒‒‒ ‒‒‒‒‒‒‒‒‒‒ ‒‒‒‒‒‒‒‒‒‒ ‒‒‒‒‒‒‒‒‒‒ ‒‒‒‒‒‒‒‒‒‒ ‒‒‒‒‒‒‒‒‒‒ ‒‒‒‒‒‒‒‒‒‒ ‒‒‒‒‒‒‒‒‒‒ ‒‒‒‒‒‒‒‒‒‒ ‒‒‒‒‒‒‒‒‒‒ ‒‒‒‒‒‒‒‒‒‒ ‒‒‒‒‒‒‒‒‒‒ ‒‒‒‒‒‒‒‒‒‒ ‒‒‒‒‒‒‒‒‒‒ ‒‒‒‒‒‒‒‒‒‒ ‒‒‒‒‒‒‒‒‒‒ ‒‒‒‒‒‒‒‒‒‒ ‒‒‒‒‒‒‒‒‒‒ ‒‒‒‒‒‒‒‒‒‒ ‒‒‒‒‒‒‒‒‒‒ ‒‒‒‒‒‒‒‒‒‒ ‒‒‒‒‒‒‒‒‒‒ ‒‒‒‒‒‒‒‒‒‒ ‒‒‒‒‒‒‒‒‒‒ ‒‒‒‒‒‒‒‒‒‒ ‒‒‒‒‒‒‒‒‒‒ ‒‒‒‒‒‒‒‒‒‒ ‒‒‒‒‒‒‒‒‒‒ ‒‒‒‒‒‒‒‒‒‒ ‒‒‒‒‒‒‒‒‒‒ ‒‒‒‒‒‒‒‒‒‒ ‒‒‒‒‒‒‒‒‒‒ ‒‒‒‒‒‒‒‒‒‒ ‒‒‒‒‒‒‒‒‒‒ ‒‒‒‒‒‒‒‒‒‒ ‒‒‒‒‒‒‒‒‒‒ ‒‒‒‒‒‒‒‒‒‒ ‒‒‒‒‒‒‒‒‒‒ ‒‒‒‒‒‒‒‒‒‒ ‒‒‒‒‒‒‒‒‒‒ ‒‒‒‒‒‒‒‒‒‒ ‒‒‒‒‒‒‒‒‒‒ ‒‒‒‒‒‒‒‒‒‒ ‒‒‒‒‒‒‒‒‒‒ ‒‒‒‒‒‒‒‒‒‒ ‒‒‒‒‒‒‒‒‒‒ ‒‒‒‒‒‒‒‒‒‒ ‒‒‒‒‒‒‒‒‒‒ ‒‒‒‒‒‒‒‒‒‒ ‒‒‒‒‒‒‒‒‒‒ ‒‒‒‒‒‒‒‒‒‒ ‒‒‒‒‒‒‒‒‒‒ ‒‒‒‒‒‒‒‒‒‒ ‒‒‒‒‒‒‒‒‒‒ ‒‒‒‒‒‒‒‒‒‒ ‒‒‒‒‒‒‒‒‒‒ ‒‒‒‒‒‒‒‒‒‒ ‒‒‒‒‒‒‒‒‒‒ ‒‒‒‒‒‒‒‒‒‒ ‒‒‒‒‒‒‒‒‒‒ ‒‒‒‒‒‒‒‒‒‒ ‒‒‒‒‒‒‒‒‒‒ ‒‒‒‒‒‒‒‒‒‒ ‒‒‒‒‒‒‒‒‒‒ ‒‒‒‒‒‒‒‒‒‒ ‒‒‒‒‒‒‒‒‒‒ ‒‒‒‒‒‒‒‒‒‒ ‒‒‒‒‒‒‒‒‒‒ ‒‒‒‒‒‒‒‒‒‒ ‒‒‒‒‒‒‒‒‒‒ ‒‒‒‒‒‒‒‒‒‒ ‒‒‒‒‒‒‒‒‒‒ ‒‒‒‒‒‒‒‒‒‒ ‒‒‒‒‒‒‒‒‒‒ ‒‒‒‒‒‒‒‒‒‒ ‒‒‒‒‒‒‒‒‒‒ ‒‒‒‒‒‒‒‒‒‒ ‒‒‒‒‒‒‒‒‒‒ ‒‒‒‒‒‒‒‒‒‒ ‒‒‒‒‒‒‒‒‒‒ ‒‒‒‒‒‒‒‒‒‒ ‒‒‒‒‒‒‒‒‒‒ ‒‒‒‒‒‒‒‒‒‒ ‒‒‒‒‒‒‒‒‒‒ ‒‒‒‒‒‒‒‒‒‒ ‒‒‒‒‒‒‒‒‒‒ ‒‒‒‒‒‒‒‒‒‒ ‒‒‒‒‒‒‒‒‒‒ ‒‒‒‒‒‒‒‒‒‒ ‒‒‒‒‒‒‒‒‒‒ ‒‒‒‒‒‒‒‒‒‒ ‒‒‒‒‒‒‒‒‒‒ ‒‒‒‒‒‒‒‒‒‒ ‒‒‒‒‒‒‒‒‒‒ ‒‒‒‒‒‒‒‒‒‒ ‒‒‒‒‒‒‒‒‒‒ ‒‒‒‒‒‒‒‒‒‒ ‒‒‒‒‒‒‒‒‒‒ ‒‒‒‒‒‒‒‒‒‒ ‒‒‒‒‒‒‒‒‒‒ ‒‒‒‒‒‒‒‒‒‒ ‒‒‒‒‒‒‒‒‒‒ ‒‒‒‒‒‒‒‒‒‒ ‒‒‒‒‒‒‒‒‒‒ ‒‒‒‒‒‒‒‒‒‒ ‒‒‒‒‒‒‒‒‒‒ ‒‒‒‒‒‒‒‒‒‒ ‒‒‒‒‒‒‒‒‒‒ ‒‒‒‒‒‒‒‒‒‒ ‒‒‒‒‒‒‒‒‒‒ ‒‒‒‒‒‒‒‒‒‒ ‒‒‒‒‒‒‒‒‒‒ ‒‒‒‒‒‒‒‒‒‒ ‒‒‒‒‒‒‒‒‒‒ ‒‒‒‒‒‒‒‒‒‒ ‒‒‒‒‒‒‒‒‒‒ ‒‒‒‒‒‒‒‒‒‒ ‒‒‒‒‒‒‒‒‒‒ ‒‒‒‒‒‒‒‒‒‒ ‒‒‒‒‒‒‒‒‒‒ ‒‒‒‒‒‒‒‒‒‒ ‒‒‒‒‒‒‒‒‒‒ ‒‒‒‒‒‒‒‒‒‒ ‒‒‒‒‒‒‒‒‒‒ ‒‒‒‒‒‒‒‒‒‒ ‒‒‒‒‒‒‒‒‒‒ ‒‒‒‒‒‒‒‒‒‒ ‒‒‒‒‒‒‒‒‒‒ ‒‒‒‒‒‒‒‒‒‒ ‒‒‒‒‒‒‒‒‒‒ ‒‒‒‒‒‒‒‒‒‒ ‒‒‒‒‒‒‒‒‒‒ ‒‒‒‒‒‒‒‒‒‒ ‒‒‒‒‒‒‒‒‒‒ ‒‒‒‒‒‒‒‒‒‒ ‒‒‒‒‒‒‒‒‒‒ ‒‒‒‒‒‒‒‒‒‒ ‒‒‒‒‒‒‒‒‒‒ ‒‒‒‒‒‒‒‒‒‒ ‒‒‒‒‒‒‒‒‒‒ ‒‒‒‒‒‒‒‒‒‒ ‒‒‒‒‒‒‒‒‒‒ ‒‒‒‒‒‒‒‒‒‒ ‒‒‒‒‒‒‒‒‒‒ ‒‒‒‒‒‒‒‒‒‒ ‒
‒‒‒‒ ‒‒‒‒‒‒‒‒‒‒ ‒‒‒‒‒‒‒‒‒‒ ‒‒‒‒‒‒‒‒‒‒ ‒‒‒‒‒‒‒‒‒‒ ‒‒‒‒‒‒‒‒‒‒ ‒‒‒‒‒‒‒‒‒‒ ‒‒‒‒‒‒‒‒‒‒ ‒‒‒‒‒‒‒‒‒‒ ‒‒‒‒‒‒‒‒‒‒ ‒‒‒‒‒‒‒‒‒‒ ‒‒‒‒‒‒‒‒‒‒ ‒‒‒‒‒‒‒‒‒‒ ‒‒‒‒‒‒‒‒‒‒ ‒‒‒‒‒‒‒‒‒‒ ‒‒‒‒‒‒‒‒‒‒ ‒‒‒‒‒‒‒‒‒‒ ‒‒‒‒‒‒‒‒‒‒ ‒‒‒‒‒‒‒‒‒‒ ‒‒‒‒‒‒‒‒‒‒ ‒‒‒‒‒‒‒‒‒‒ ‒‒‒‒‒‒‒‒‒‒ ‒‒‒‒‒‒‒‒‒‒ ‒‒‒‒‒‒‒‒‒‒ ‒‒‒‒‒‒‒‒‒‒ ‒‒‒‒‒‒‒‒‒‒ ‒‒‒‒‒‒‒‒‒‒ ‒‒‒‒‒‒‒‒‒‒ ‒‒‒‒‒‒‒‒‒‒ ‒‒‒‒‒‒‒‒‒‒ ‒‒‒‒‒‒‒‒‒‒ ‒‒‒‒‒‒‒‒‒‒ ‒‒‒‒‒‒‒‒‒‒ ‒‒‒‒‒‒‒‒‒‒ ‒‒‒‒‒‒‒‒‒‒ ‒‒‒‒‒‒‒‒‒‒ ‒‒‒‒‒‒‒‒‒‒ ‒‒‒‒‒‒‒‒‒‒ ‒‒‒‒‒‒‒‒‒‒ ‒‒‒‒‒‒‒‒‒‒ ‒‒‒‒‒‒‒‒‒‒ ‒‒‒‒‒‒‒‒‒‒ ‒‒‒‒‒‒‒‒‒‒ ‒‒‒‒‒‒‒‒‒‒ ‒‒‒‒‒‒‒‒‒‒ ‒‒‒‒‒‒‒‒‒‒ ‒‒‒‒‒‒‒‒‒‒ ‒‒‒‒‒‒‒‒‒‒ ‒‒‒‒‒‒‒‒‒‒ ‒‒‒‒‒‒‒‒‒‒ ‒‒‒‒‒‒‒‒‒‒ ‒‒‒‒‒‒‒‒‒‒ ‒‒‒‒‒‒‒‒‒‒ ‒‒‒‒‒‒‒‒‒‒ ‒‒‒‒‒‒‒‒‒‒ ‒‒‒‒‒‒‒‒‒‒ ‒‒‒‒‒‒‒‒‒‒ ‒‒‒‒‒‒‒‒‒‒ ‒‒‒‒‒‒‒‒‒‒ ‒‒‒‒‒‒‒‒‒‒ ‒‒‒‒‒‒‒‒‒‒ ‒‒‒‒‒‒‒‒‒‒ ‒‒‒‒‒‒‒‒‒‒ ‒‒‒‒‒‒‒‒‒‒ ‒‒‒‒‒‒‒‒‒‒ ‒‒‒‒‒‒‒‒‒‒ ‒‒‒‒‒‒‒‒‒‒ ‒‒‒‒‒‒‒‒‒‒ ‒‒‒‒‒‒‒‒‒‒ ‒‒‒‒‒‒‒‒‒‒ ‒‒‒‒‒‒‒‒‒‒ ‒‒‒‒‒‒‒‒‒‒ ‒‒‒‒‒‒‒‒‒‒ ‒‒‒‒‒‒‒‒‒‒ ‒‒‒‒‒‒‒‒‒‒ ‒‒‒‒‒‒‒‒‒‒ ‒‒‒‒‒‒‒‒‒‒ ‒‒‒‒‒‒‒‒‒‒ ‒‒‒‒‒‒‒‒‒‒ ‒‒‒‒‒‒‒‒‒‒ ‒‒‒‒‒‒‒‒‒‒ ‒‒‒‒‒‒‒‒‒‒ ‒‒‒‒‒‒‒‒‒‒ ‒‒‒‒‒‒‒‒‒‒ ‒‒‒‒‒‒‒‒‒‒ ‒‒‒‒‒‒‒‒‒‒ ‒‒‒‒‒‒‒‒‒‒ ‒‒‒‒‒‒‒‒‒‒ ‒‒‒‒‒‒‒‒‒‒ ‒‒‒‒‒‒‒‒‒‒ ‒‒‒‒‒‒‒‒‒‒ ‒‒‒‒‒‒‒‒‒‒ ‒‒‒‒‒‒‒‒‒‒ ‒‒‒‒‒‒‒‒‒‒ ‒‒‒‒‒‒‒‒‒‒ ‒‒‒‒‒‒‒‒‒‒ ‒‒‒‒‒‒‒‒‒‒ ‒‒‒‒‒‒‒‒‒‒ ‒‒‒‒‒‒‒‒‒‒ ‒‒‒‒‒‒‒‒‒‒ ‒‒‒‒‒‒‒‒‒‒ ‒‒‒‒‒‒‒‒‒‒ ‒‒‒‒‒‒‒‒‒‒ ‒‒‒‒‒‒‒‒‒‒ ‒‒‒‒‒‒‒‒‒‒ ‒‒‒‒‒‒‒‒‒‒ ‒‒‒‒‒‒‒‒‒‒ ‒‒‒‒‒‒‒‒‒‒ ‒‒‒‒‒‒‒‒‒‒ ‒‒‒‒‒‒‒‒‒‒ ‒‒‒‒‒‒‒‒‒‒ ‒‒‒‒‒‒‒‒‒‒ ‒‒‒‒‒‒‒‒‒‒ ‒‒‒‒‒‒‒‒‒‒ ‒‒‒‒‒‒‒‒‒‒ ‒‒‒‒‒‒‒‒‒‒ ‒‒‒‒‒‒‒‒‒‒ ‒‒‒‒‒‒‒‒‒‒ ‒‒‒‒‒‒‒‒‒‒ ‒‒‒‒‒‒‒‒‒‒ ‒‒‒‒‒‒‒‒‒‒ ‒‒‒‒‒‒‒‒‒‒ ‒‒‒‒‒‒‒‒‒‒ ‒‒‒‒‒‒‒‒‒‒ ‒‒‒‒‒‒‒‒‒‒ ‒‒‒‒‒‒‒‒‒‒ ‒‒‒‒‒‒‒‒‒‒ ‒‒‒‒‒‒‒‒‒‒ ‒‒‒‒‒‒‒‒‒‒ ‒‒‒‒‒‒‒‒‒‒ ‒‒‒‒‒‒‒‒‒‒ ‒‒‒‒‒‒‒‒‒‒ ‒‒‒‒‒‒‒‒‒‒ ‒‒‒‒‒‒‒‒‒‒ ‒‒‒‒‒‒‒‒‒‒ ‒‒‒‒‒‒‒‒‒‒ ‒‒‒‒‒‒‒‒‒‒ ‒‒‒‒‒‒‒‒‒‒ ‒‒‒‒‒‒‒‒‒‒ ‒‒‒‒‒‒‒‒‒‒ ‒‒‒‒‒‒‒‒‒‒ ‒‒‒‒‒‒‒‒‒‒ ‒‒‒‒‒‒‒‒‒‒ ‒‒‒‒‒‒‒‒‒‒ ‒‒‒‒‒‒‒‒‒‒ ‒‒‒‒‒‒‒‒‒‒ ‒‒‒‒‒‒‒‒‒‒ ‒‒‒‒‒‒‒‒‒‒ ‒‒‒‒‒‒‒‒‒‒ ‒‒‒‒‒‒‒‒‒‒ ‒‒‒‒‒‒‒‒‒‒ ‒‒‒‒‒‒‒‒‒‒ ‒‒‒‒‒‒‒‒‒‒ ‒‒‒‒‒‒‒‒‒‒ ‒‒‒‒‒‒‒‒‒‒ ‒‒‒‒‒‒‒‒‒‒ ‒‒‒‒‒‒‒‒‒‒ ‒‒‒‒‒‒‒‒‒‒ ‒‒‒‒‒‒‒‒‒‒ ‒‒‒‒‒‒‒‒‒‒ ‒‒‒‒‒‒‒‒‒‒ ‒‒‒‒‒‒‒‒‒‒ ‒‒‒‒‒‒‒‒‒‒ ‒‒‒‒‒‒‒‒‒‒ ‒‒‒‒‒‒‒‒‒‒ ‒‒‒‒‒‒‒‒‒‒ ‒‒‒‒‒‒‒‒‒‒ ‒‒‒‒‒‒‒‒‒‒ ‒‒‒‒‒‒‒‒‒‒ ‒‒‒‒‒‒‒‒‒‒ ‒‒‒‒‒‒‒‒‒‒ ‒‒‒‒‒‒‒‒‒‒ ‒‒‒‒‒‒‒‒‒‒ ‒‒‒‒‒‒‒‒‒‒ ‒‒‒‒‒‒‒‒‒‒ ‒‒‒‒‒‒‒‒‒‒ ‒‒‒‒‒‒‒‒‒‒ ‒‒‒‒‒‒‒‒‒‒ ‒‒‒‒‒‒‒‒‒‒ ‒‒‒‒‒‒‒‒‒‒ ‒‒‒‒‒‒‒‒‒‒ ‒‒‒‒‒‒‒‒‒‒ ‒‒‒‒‒‒‒‒‒‒ ‒‒‒‒‒‒‒‒‒‒ ‒‒‒‒‒‒‒‒‒‒ ‒‒‒‒‒‒‒‒‒‒ ‒‒‒‒‒‒‒‒‒‒ ‒‒‒‒‒‒‒‒‒‒ ‒‒‒‒‒‒‒‒‒‒ ‒‒‒‒‒‒‒‒‒‒ ‒‒‒‒‒‒‒‒‒‒ ‒‒‒‒‒‒‒‒‒‒ ‒‒‒‒‒‒‒‒‒‒ ‒‒‒‒‒‒‒‒‒‒ ‒‒‒‒‒‒‒‒‒‒ ‒‒‒‒‒‒‒‒‒‒ ‒‒‒‒‒‒‒‒‒‒ ‒‒‒‒‒‒‒‒‒‒ ‒‒‒‒‒‒‒‒‒‒ ‒‒‒‒‒‒‒‒‒‒ ‒‒‒‒‒‒‒‒‒‒ ‒‒‒‒‒‒‒‒‒‒ ‒‒‒‒‒‒‒‒‒‒ ‒‒‒‒‒‒‒‒‒‒ ‒‒‒‒‒‒‒‒‒‒ ‒‒‒‒‒‒‒‒‒‒ ‒‒‒‒‒‒‒‒‒‒ ‒‒‒‒‒‒‒‒‒‒ ‒‒‒‒‒‒‒‒‒‒ ‒‒‒‒‒‒‒‒‒‒ ‒‒‒‒‒‒‒‒‒‒ ‒‒‒‒‒‒‒‒‒‒ ‒‒‒‒‒‒‒‒‒‒ ‒‒‒‒‒‒‒‒‒‒ ‒‒‒‒‒‒‒‒‒‒ ‒‒‒‒‒‒‒‒‒‒ ‒‒‒‒‒‒‒‒‒‒ ‒‒‒‒‒‒‒‒‒‒ ‒‒‒‒‒‒‒‒‒‒ ‒‒‒‒‒‒‒‒‒‒ ‒‒‒‒‒‒‒‒‒‒ ‒‒‒‒‒‒‒‒‒‒ ‒‒‒‒‒‒‒‒‒‒ ‒‒‒‒‒‒‒‒‒‒ ‒‒‒‒‒‒‒‒‒‒ ‒‒‒‒‒‒‒‒‒‒ ‒‒‒‒‒‒‒‒‒‒ ‒‒‒‒‒‒‒‒‒‒ ‒‒‒‒‒‒‒‒‒‒ ‒‒‒‒‒‒‒‒‒‒ ‒‒‒‒‒‒‒‒‒‒ ‒‒‒‒‒‒‒‒‒‒ ‒‒‒‒‒‒‒‒‒‒ ‒‒‒‒‒‒‒‒‒‒ ‒‒‒‒‒‒‒‒‒‒ ‒‒‒‒‒‒‒‒‒‒ ‒‒‒‒‒‒‒‒‒‒ ‒‒‒‒‒‒‒‒‒‒ ‒‒‒‒‒‒‒‒‒‒ ‒‒‒‒‒‒‒‒‒‒ ‒‒‒‒‒‒‒‒‒‒ ‒‒‒‒‒‒‒‒‒‒ ‒‒‒‒‒‒‒‒‒‒ ‒‒‒‒‒‒‒‒‒‒ ‒‒‒‒‒‒‒‒‒‒ ‒‒‒‒‒‒‒‒‒‒ ‒‒‒‒‒‒‒‒‒‒ ‒‒‒‒‒‒‒‒‒‒ ‒‒‒‒‒‒‒‒‒‒ ‒‒‒‒‒‒‒‒‒‒ ‒‒‒‒‒‒‒‒‒‒ ‒‒‒‒‒‒‒‒‒‒ ‒‒‒‒‒‒‒‒‒‒ ‒‒‒‒‒‒‒‒‒‒ ‒‒‒‒‒‒‒‒‒‒ ‒
‒‒ ‒‒‒‒‒‒‒‒‒‒ ‒‒‒‒‒‒‒‒‒‒ ‒‒‒‒‒‒‒‒‒‒ ‒‒‒‒‒‒‒‒‒‒ ‒‒‒‒‒‒‒‒‒‒ ‒‒‒‒‒‒‒‒‒‒ ‒‒‒‒‒‒‒‒‒‒ ‒‒‒‒‒‒‒‒‒‒ ‒‒‒‒‒‒‒‒‒‒ ‒‒‒‒‒‒‒‒‒‒ ‒‒‒‒‒‒‒‒‒‒ ‒‒‒‒‒‒‒‒‒‒ ‒‒‒‒‒‒‒‒‒‒ ‒‒‒‒‒‒‒‒‒‒ ‒‒‒‒‒‒‒‒‒‒ ‒‒‒‒‒‒‒‒‒‒ ‒‒‒‒‒‒‒‒‒‒ ‒‒‒‒‒‒‒‒‒‒ ‒‒‒‒‒‒‒‒‒‒ ‒‒‒‒‒‒‒‒‒‒ ‒‒‒‒‒‒‒‒‒‒ ‒‒‒‒‒‒‒‒‒‒ ‒‒‒‒‒‒‒‒‒‒ ‒‒‒‒‒‒‒‒‒‒ ‒‒‒‒‒‒‒‒‒‒ ‒‒‒‒‒‒‒‒‒‒ ‒‒‒‒‒‒‒‒‒‒ ‒‒‒‒‒‒‒‒‒‒ ‒‒‒‒‒‒‒‒‒‒ ‒‒‒‒‒‒‒‒‒‒ ‒‒‒‒‒‒‒‒‒‒ ‒‒‒‒‒‒‒‒‒‒ ‒‒‒‒‒‒‒‒‒‒ ‒‒‒‒‒‒‒‒‒‒ ‒‒‒‒‒‒‒‒‒‒ ‒‒‒‒‒‒‒‒‒‒ ‒‒‒‒‒‒‒‒‒‒ ‒‒‒‒‒‒‒‒‒‒ ‒‒‒‒‒‒‒‒‒‒ ‒‒‒‒‒‒‒‒‒‒ ‒‒‒‒‒‒‒‒‒‒ ‒‒‒‒‒‒‒‒‒‒ ‒‒‒‒‒‒‒‒‒‒ ‒‒‒‒‒‒‒‒‒‒ ‒‒‒‒‒‒‒‒‒‒ ‒‒‒‒‒‒‒‒‒‒ ‒‒‒‒‒‒‒‒‒‒ ‒‒‒‒‒‒‒‒‒‒ ‒‒‒‒‒‒‒‒‒‒ ‒‒‒‒‒‒‒‒‒‒ ‒‒‒‒‒‒‒‒‒‒ ‒‒‒‒‒‒‒‒‒‒ ‒‒‒‒‒‒‒‒‒‒ ‒‒‒‒‒‒‒‒‒‒ ‒‒‒‒‒‒‒‒‒‒ ‒‒‒‒‒‒‒‒‒‒ ‒‒‒‒‒‒‒‒‒‒ ‒‒‒‒‒‒‒‒‒‒ ‒‒‒‒‒‒‒‒‒‒ ‒‒‒‒‒‒‒‒‒‒ ‒‒‒‒‒‒‒‒‒‒ ‒‒‒‒‒‒‒‒‒‒ ‒‒‒‒‒‒‒‒‒‒ ‒‒‒‒‒‒‒‒‒‒ ‒‒‒‒‒‒‒‒‒‒ ‒‒‒‒‒‒‒‒‒‒ ‒‒‒‒‒‒‒‒‒‒ ‒‒‒‒‒‒‒‒‒‒ ‒‒‒‒‒‒‒‒‒‒ ‒‒‒‒‒‒‒‒‒‒ ‒‒‒‒‒‒‒‒‒‒ ‒‒‒‒‒‒‒‒‒‒ ‒‒‒‒‒‒‒‒‒‒ ‒‒‒‒‒‒‒‒‒‒ ‒‒‒‒‒‒‒‒‒‒ ‒‒‒‒‒‒‒‒‒‒ ‒‒‒‒‒‒‒‒‒‒ ‒‒‒‒‒‒‒‒‒‒ ‒‒‒‒‒‒‒‒‒‒ ‒‒‒‒‒‒‒‒‒‒ ‒‒‒‒‒‒‒‒‒‒ ‒‒‒‒‒‒‒‒‒‒ ‒‒‒‒‒‒‒‒‒‒ ‒‒‒‒‒‒‒‒‒‒ ‒‒‒‒‒‒‒‒‒‒ ‒‒‒‒‒‒‒‒‒‒ ‒‒‒‒‒‒‒‒‒‒ ‒‒‒‒‒‒‒‒‒‒ ‒‒‒‒‒‒‒‒‒‒ ‒‒‒‒‒‒‒‒‒‒ ‒‒‒‒‒‒‒‒‒‒ ‒‒‒‒‒‒‒‒‒‒ ‒‒‒‒‒‒‒‒‒‒ ‒‒‒‒‒‒‒‒‒‒ ‒‒‒‒‒‒‒‒‒‒ ‒‒‒‒‒‒‒‒‒‒ ‒‒‒‒‒‒‒‒‒‒ ‒‒‒‒‒‒‒‒‒‒ ‒‒‒‒‒‒‒‒‒‒ ‒‒‒‒‒‒‒‒‒‒ ‒‒‒‒‒‒‒‒‒‒ ‒‒‒‒‒‒‒‒‒‒ ‒‒‒‒‒‒‒‒‒‒ ‒‒‒‒‒‒‒‒‒‒ ‒‒‒‒‒‒‒‒‒‒ ‒‒‒‒‒‒‒‒‒‒ ‒‒‒‒‒‒‒‒‒‒ ‒‒‒‒‒‒‒‒‒‒ ‒‒‒‒‒‒‒‒‒‒ ‒‒‒‒‒‒‒‒‒‒ ‒‒‒‒‒‒‒‒‒‒ ‒‒‒‒‒‒‒‒‒‒ ‒‒‒‒‒‒‒‒‒‒ ‒‒‒‒‒‒‒‒‒‒ ‒‒‒‒‒‒‒‒‒‒ ‒‒‒‒‒‒‒‒‒‒ ‒‒‒‒‒‒‒‒‒‒ ‒‒‒‒‒‒‒‒‒‒ ‒‒‒‒‒‒‒‒‒‒ ‒‒‒‒‒‒‒‒‒‒ ‒‒‒‒‒‒‒‒‒‒ ‒‒‒‒‒‒‒‒‒‒ ‒‒‒‒‒‒‒‒‒‒ ‒‒‒‒‒‒‒‒‒‒ ‒‒‒‒‒‒‒‒‒‒ ‒‒‒‒‒‒‒‒‒‒ ‒‒‒‒‒‒‒‒‒‒ ‒‒‒‒‒‒‒‒‒‒ ‒‒‒‒‒‒‒‒‒‒ ‒‒‒‒‒‒‒‒‒‒ ‒‒‒‒‒‒‒‒‒‒ ‒‒‒‒‒‒‒‒‒‒ ‒‒‒‒‒‒‒‒‒‒ ‒‒‒‒‒‒‒‒‒‒ ‒‒‒‒‒‒‒‒‒‒ ‒‒‒‒‒‒‒‒‒‒ ‒‒‒‒‒‒‒‒‒‒ ‒‒‒‒‒‒‒‒‒‒ ‒‒‒‒‒‒‒‒‒‒ ‒‒‒‒‒‒‒‒‒‒ ‒‒‒‒‒‒‒‒‒‒ ‒‒‒‒‒‒‒‒‒‒ ‒‒‒‒‒‒‒‒‒‒ ‒‒‒‒‒‒‒‒‒‒ ‒‒‒‒‒‒‒‒‒‒ ‒‒‒‒‒‒‒‒‒‒ ‒‒‒‒‒‒‒‒‒‒ ‒‒‒‒‒‒‒‒‒‒ ‒‒‒‒‒‒‒‒‒‒ ‒‒‒‒‒‒‒‒‒‒ ‒‒‒‒‒‒‒‒‒‒ ‒‒‒‒‒‒‒‒‒‒ ‒‒‒‒‒‒‒‒‒‒ ‒‒‒‒‒‒‒‒‒‒ ‒‒‒‒‒‒‒‒‒‒ ‒‒‒‒‒‒‒‒‒‒ ‒‒‒‒‒‒‒‒‒‒ ‒‒‒‒‒‒‒‒‒‒ ‒‒‒‒‒‒‒‒‒‒ ‒‒‒‒‒‒‒‒‒‒ ‒‒‒‒‒‒‒‒‒‒ ‒‒‒‒‒‒‒‒‒‒ ‒‒‒‒‒‒‒‒‒‒ ‒‒‒‒‒‒‒‒‒‒ ‒‒‒‒‒‒‒‒‒‒ ‒‒‒‒‒‒‒‒‒‒ ‒‒‒‒‒‒‒‒‒‒ ‒‒‒‒‒‒‒‒‒‒ ‒‒‒‒‒‒‒‒‒‒ ‒‒‒‒‒‒‒‒‒‒ ‒‒‒‒‒‒‒‒‒‒ ‒‒‒‒‒‒‒‒‒‒ ‒‒‒‒‒‒‒‒‒‒ ‒‒‒‒‒‒‒‒‒‒ ‒‒‒‒‒‒‒‒‒‒ ‒‒‒‒‒‒‒‒‒‒ ‒‒‒‒‒‒‒‒‒‒ ‒‒‒‒‒‒‒‒‒‒ ‒‒‒‒‒‒‒‒‒‒ ‒‒‒‒‒‒‒‒‒‒ ‒‒‒‒‒‒‒‒‒‒ ‒‒‒‒‒‒‒‒‒‒ ‒‒‒‒‒‒‒‒‒‒ ‒‒‒‒‒‒‒‒‒‒ ‒‒‒‒‒‒‒‒‒‒ ‒‒‒‒‒‒‒‒‒‒ ‒‒‒‒‒‒‒‒‒‒ ‒‒‒‒‒‒‒‒‒‒ ‒‒‒‒‒‒‒‒‒‒ ‒‒‒‒‒‒‒‒‒‒ ‒‒‒‒‒‒‒‒‒‒ ‒‒‒‒‒‒‒‒‒‒ ‒‒‒‒‒‒‒‒‒‒ ‒‒‒‒‒‒‒‒‒‒ ‒‒‒‒‒‒‒‒‒‒ ‒‒‒‒‒‒‒‒‒‒ ‒‒‒‒‒‒‒‒‒‒ ‒‒‒‒‒‒‒‒‒‒ ‒‒‒‒‒‒‒‒‒‒ ‒‒‒‒‒‒‒‒‒‒ ‒‒‒‒‒‒‒‒‒‒ ‒‒‒‒‒‒‒‒‒‒ ‒‒‒‒‒‒‒‒‒‒ ‒‒‒‒‒‒‒‒‒‒ ‒‒‒‒‒‒‒‒‒‒ ‒‒‒‒‒‒‒‒‒‒ ‒‒‒‒‒‒‒‒‒‒ ‒‒‒‒‒‒‒‒‒‒ ‒‒‒‒‒‒‒‒‒‒ ‒‒‒‒‒‒‒‒‒‒ ‒‒‒‒‒‒‒‒‒‒ ‒‒‒‒‒‒‒‒‒‒ ‒‒‒‒‒‒‒‒‒‒ ‒‒‒‒‒‒‒‒‒‒ ‒‒‒‒‒‒‒‒‒‒ ‒‒‒‒‒‒‒‒‒‒ ‒‒‒‒‒‒‒‒‒‒ ‒‒‒‒‒‒‒‒‒‒
‒‒‒‒‒‒‒‒‒‒ ‒‒‒‒‒‒‒‒‒‒ ‒‒‒‒‒‒‒‒‒‒ ‒‒‒‒‒‒‒‒‒‒ ‒‒‒‒‒‒‒‒‒‒ ‒‒‒‒‒‒‒‒‒‒ ‒‒‒‒‒‒‒‒‒‒ ‒‒‒‒‒‒‒‒‒‒ ‒‒‒‒‒‒‒‒‒‒ ‒‒‒‒‒‒‒‒‒‒ ‒‒‒‒‒‒‒‒‒‒ ‒‒‒‒‒‒‒‒‒‒ ‒‒‒‒‒‒‒‒‒‒ ‒‒‒‒‒‒‒‒‒‒ ‒‒‒‒‒‒‒‒‒‒ ‒‒‒‒‒‒‒‒‒‒ ‒‒‒‒‒‒‒‒‒‒ ‒‒‒‒‒‒‒‒‒‒ ‒‒‒‒‒‒‒‒‒‒ ‒‒‒‒‒‒‒‒‒‒ ‒‒‒‒‒‒‒‒‒‒ ‒‒‒‒‒‒‒‒‒‒ ‒‒‒‒‒‒‒‒‒‒ ‒‒‒‒‒‒‒‒‒‒ ‒‒‒‒‒‒‒‒‒‒ ‒‒‒‒‒‒‒‒‒‒ ‒‒‒‒‒‒‒‒‒‒ ‒‒‒‒‒‒‒‒‒‒ ‒‒‒‒‒‒‒‒‒‒ ‒‒‒‒‒‒‒‒‒‒ ‒‒‒‒‒‒‒‒‒‒ ‒‒‒‒‒‒‒‒‒‒ ‒‒‒‒‒‒‒‒‒‒ ‒‒‒‒‒‒‒‒‒‒ ‒‒‒‒‒‒‒‒‒‒ ‒‒‒‒‒‒‒‒‒‒ ‒‒‒‒‒‒‒‒‒‒ ‒‒‒‒‒‒‒‒‒‒ ‒‒‒‒‒‒‒‒‒‒ ‒‒‒‒‒‒‒‒‒‒ ‒‒‒‒‒‒‒‒‒‒ ‒‒‒‒‒‒‒‒‒‒ ‒‒‒‒‒‒‒‒‒‒ ‒‒‒‒‒‒‒‒‒‒ ‒‒‒‒‒‒‒‒‒‒ ‒‒‒‒‒‒‒‒‒‒ ‒‒‒‒‒‒‒‒‒‒ ‒‒‒‒‒‒‒‒‒‒ ‒‒‒‒‒‒‒‒‒‒ ‒‒‒‒‒‒‒‒‒‒ ‒‒‒‒‒‒‒‒‒‒ ‒‒‒‒‒‒‒‒‒‒ ‒‒‒‒‒‒‒‒‒‒ ‒‒‒‒‒‒‒‒‒‒ ‒‒‒‒‒‒‒‒‒‒ ‒‒‒‒‒‒‒‒‒‒ ‒‒‒‒‒‒‒‒‒‒ ‒‒‒‒‒‒‒‒‒‒ ‒‒‒‒‒‒‒‒‒‒ ‒‒‒‒‒‒‒‒‒‒ ‒‒‒‒‒‒‒‒‒‒ ‒‒‒‒‒‒‒‒‒‒ ‒‒‒‒‒‒‒‒‒‒ ‒‒‒‒‒‒‒‒‒‒ ‒‒‒‒‒‒‒‒‒‒ ‒‒‒‒‒‒‒‒‒‒ ‒‒‒‒‒‒‒‒‒‒ ‒‒‒‒‒‒‒‒‒‒ ‒‒‒‒‒‒‒‒‒‒ ‒‒‒‒‒‒‒‒‒‒ ‒‒‒‒‒‒‒‒‒‒ ‒‒‒‒‒‒‒‒‒‒ ‒‒‒‒‒‒‒‒‒‒ ‒‒‒‒‒‒‒‒‒‒ ‒‒‒‒‒‒‒‒‒‒ ‒‒‒‒‒‒‒‒‒‒ ‒‒‒‒‒‒‒‒‒‒ ‒‒‒‒‒‒‒‒‒‒ ‒‒‒‒‒‒‒‒‒‒ ‒‒‒‒‒‒‒‒‒‒ ‒‒‒‒‒‒‒‒‒‒ ‒‒‒‒‒‒‒‒‒‒ ‒‒‒‒‒‒‒‒‒‒ ‒‒‒‒‒‒‒‒‒‒ ‒‒‒‒‒‒‒‒‒‒ ‒‒‒‒‒‒‒‒‒‒ ‒‒‒‒‒‒‒‒‒‒ ‒‒‒‒‒‒‒‒‒‒ ‒‒‒‒‒‒‒‒‒‒ ‒‒‒‒‒‒‒‒‒‒ ‒‒‒‒‒‒‒‒‒‒ ‒‒‒‒‒‒‒‒‒‒ ‒‒‒‒‒‒‒‒‒‒ ‒‒‒‒‒‒‒‒‒‒ ‒‒‒‒‒‒‒‒‒‒ ‒‒‒‒‒‒‒‒‒‒ ‒‒‒‒‒‒‒‒‒‒ ‒‒‒‒‒‒‒‒‒‒ ‒‒‒‒‒‒‒‒‒‒ ‒‒‒‒‒‒‒‒‒‒ ‒‒‒‒‒‒‒‒‒‒ ‒‒‒‒‒‒‒‒‒‒ ‒‒‒‒‒‒‒‒‒‒ ‒‒‒‒‒‒‒‒‒‒ ‒‒‒‒‒‒‒‒‒‒ ‒‒‒‒‒‒‒‒‒‒ ‒‒‒‒‒‒‒‒‒‒ ‒‒‒‒‒‒‒‒‒‒ ‒‒‒‒‒‒‒‒‒‒ ‒‒‒‒‒‒‒‒‒‒ ‒‒‒‒‒‒‒‒‒‒ ‒‒‒‒‒‒‒‒‒‒ ‒‒‒‒‒‒‒‒‒‒ ‒‒‒‒‒‒‒‒‒‒ ‒‒‒‒‒‒‒‒‒‒ ‒‒‒‒‒‒‒‒‒‒ ‒‒‒‒‒‒‒‒‒‒ ‒‒‒‒‒‒‒‒‒‒ ‒‒‒‒‒‒‒‒‒‒ ‒‒‒‒‒‒‒‒‒‒ ‒‒‒‒‒‒‒‒‒‒ ‒‒‒‒‒‒‒‒‒‒ ‒‒‒‒‒‒‒‒‒‒ ‒‒‒‒‒‒‒‒‒‒ ‒‒‒‒‒‒‒‒‒‒ ‒‒‒‒‒‒‒‒‒‒ ‒‒‒‒‒‒‒‒‒‒ ‒‒‒‒‒‒‒‒‒‒ ‒‒‒‒‒‒‒‒‒‒ ‒‒‒‒‒‒‒‒‒‒ ‒‒‒‒‒‒‒‒‒‒ ‒‒‒‒‒‒‒‒‒‒ ‒‒‒‒‒‒‒‒‒‒ ‒‒‒‒‒‒‒‒‒‒ ‒‒‒‒‒‒‒‒‒‒ ‒‒‒‒‒‒‒‒‒‒ ‒‒‒‒‒‒‒‒‒‒ ‒‒‒‒‒‒‒‒‒‒ ‒‒‒‒‒‒‒‒‒‒ ‒‒‒‒‒‒‒‒‒‒ ‒‒‒‒‒‒‒‒‒‒ ‒‒‒‒‒‒‒‒‒‒ ‒‒‒‒‒‒‒‒‒‒ ‒‒‒‒‒‒‒‒‒‒ ‒‒‒‒‒‒‒‒‒‒ ‒‒‒‒‒‒‒‒‒‒ ‒‒‒‒‒‒‒‒‒‒ ‒‒‒‒‒‒‒‒‒‒ ‒‒‒‒‒‒‒‒‒‒ ‒‒‒‒‒‒‒‒‒‒ ‒‒‒‒‒‒‒‒‒‒ ‒‒‒‒‒‒‒‒‒‒ ‒‒‒‒‒‒‒‒‒‒ ‒‒‒‒‒‒‒‒‒‒ ‒‒‒‒‒‒‒‒‒‒ ‒‒‒‒‒‒‒‒‒‒ ‒‒‒‒‒‒‒‒‒‒ ‒‒‒‒‒‒‒‒‒‒ ‒‒‒‒‒‒‒‒‒‒ ‒‒‒‒‒‒‒‒‒‒ ‒‒‒‒‒‒‒‒‒‒ ‒‒‒‒‒‒‒‒‒‒ ‒‒‒‒‒‒‒‒‒‒ ‒‒‒‒‒‒‒‒‒‒ ‒‒‒‒‒‒‒‒‒‒ ‒‒‒‒‒‒‒‒‒‒ ‒‒‒‒‒‒‒‒‒‒ ‒‒‒‒‒‒‒‒‒‒ ‒‒‒‒‒‒‒‒‒‒ ‒‒‒‒‒‒‒‒‒‒ ‒‒‒‒‒‒‒‒‒‒ ‒‒‒‒‒‒‒‒‒‒ ‒‒‒‒‒‒‒‒‒‒ ‒‒‒‒‒‒‒‒‒‒ ‒‒‒‒‒‒‒‒‒‒ ‒‒‒‒‒‒‒‒‒‒ ‒‒‒‒‒‒‒‒‒‒ ‒‒‒‒‒‒‒‒‒‒ ‒‒‒‒‒‒‒‒‒‒ ‒‒‒‒‒‒‒‒‒‒ ‒‒‒‒‒‒‒‒‒‒ ‒‒‒‒‒‒‒‒‒‒ ‒‒‒‒‒‒‒‒‒‒ ‒‒‒‒‒‒‒‒‒‒ ‒‒‒‒‒‒‒‒‒‒ ‒‒‒‒‒‒‒‒‒‒ ‒‒‒‒‒‒‒‒‒‒ ‒‒‒‒‒‒‒‒‒‒ ‒‒‒‒‒‒‒‒‒‒ ‒‒‒‒‒‒‒‒‒‒ ‒‒‒‒‒‒‒‒‒‒ ‒‒‒‒‒‒‒‒‒‒ ‒‒‒‒‒‒‒‒‒‒ ‒‒‒‒‒‒‒‒‒‒ ‒‒‒‒‒‒‒‒‒‒ ‒‒‒‒‒‒‒‒‒‒ ‒‒‒‒‒‒‒‒‒‒ ‒‒‒‒‒‒‒‒‒‒ ‒‒‒‒‒‒‒‒‒‒ ‒‒‒‒‒‒‒‒‒‒ ‒‒‒‒‒‒‒‒‒‒ ‒‒‒‒‒‒‒‒‒‒ ‒‒‒‒‒‒‒‒‒‒ ‒‒‒‒‒‒‒‒‒‒ ‒‒‒‒‒‒‒‒‒‒ ‒‒‒‒‒‒‒‒‒‒ ‒‒‒‒‒‒‒‒‒‒ ‒‒‒‒‒‒‒‒‒‒ ‒‒‒‒‒‒‒‒‒‒ ‒‒‒‒‒‒‒‒‒‒ ‒‒‒‒‒‒‒‒‒‒ ‒‒‒‒‒‒‒‒‒‒ ‒‒‒‒‒‒‒‒‒‒ ‒‒‒‒‒‒‒‒‒‒ ‒‒‒‒‒‒‒‒‒‒ ‒‒‒‒‒‒‒‒‒‒ ‒‒‒‒‒‒‒‒‒‒ ‒‒‒‒‒‒‒‒‒‒ ‒‒‒‒‒‒‒‒‒‒ ‒‒‒‒‒‒‒‒‒‒ ‒‒‒‒‒‒‒‒‒‒ ‒‒‒‒‒‒‒‒‒‒ ‒‒‒‒‒‒‒‒‒‒ ‒‒‒‒‒‒‒‒‒‒ ‒‒‒‒‒‒‒‒‒‒ ‒‒‒‒‒‒‒‒‒‒ ‒‒‒‒‒‒‒‒‒‒ ‒‒‒‒‒‒‒‒‒‒ ‒‒‒‒‒‒‒‒‒‒ ‒‒‒‒‒‒‒‒‒‒ ‒‒‒‒‒‒‒‒‒‒ ‒‒‒‒‒‒‒‒‒‒ ‒‒‒‒‒‒‒‒‒‒ ‒‒‒‒‒‒‒‒‒‒ ‒‒‒‒‒‒‒‒‒‒ ‒‒‒‒‒‒‒‒‒‒ ‒‒‒‒‒‒‒‒‒‒ ‒‒‒‒‒‒‒‒‒‒ ‒‒‒‒‒‒‒‒‒‒ ‒‒‒‒‒‒‒‒‒‒ ‒‒‒‒‒‒‒‒‒‒ ‒‒‒‒‒‒‒‒‒‒ ‒‒‒‒‒‒‒‒‒‒ ‒‒‒‒‒‒‒‒‒‒ ‒‒‒‒‒‒‒‒‒‒ ‒‒‒‒‒‒‒‒‒‒ ‒‒‒‒‒‒‒‒‒‒ ‒‒‒‒‒‒‒‒‒‒ ‒‒‒‒‒‒‒‒‒‒ ‒‒‒‒‒‒‒‒‒‒ ‒‒‒‒‒‒‒‒‒‒ ‒‒‒‒‒‒‒‒‒‒ ‒‒‒‒‒‒‒‒‒‒ ‒‒‒‒‒‒‒‒‒‒ ‒‒‒‒‒‒‒‒‒‒ ‒‒‒‒‒‒‒‒‒‒ ‒‒‒‒‒‒‒‒‒‒ ‒‒‒‒‒‒‒‒‒‒ ‒‒‒‒‒‒‒‒‒‒ ‒‒‒‒‒‒‒‒‒‒ ‒‒‒‒‒‒‒‒‒‒ ‒‒‒‒‒‒‒‒‒‒ ‒‒‒‒‒‒‒‒‒‒ ‒‒‒‒‒‒‒‒‒‒ ‒‒‒‒‒‒‒‒‒‒ ‒‒‒‒‒‒‒‒‒‒ ‒‒‒‒‒‒‒‒‒‒ ‒‒‒‒‒‒‒‒‒‒ ‒‒‒‒‒‒‒‒‒‒ ‒‒‒‒‒‒‒‒‒‒ ‒‒‒‒‒‒‒‒‒‒ ‒‒‒‒‒‒‒‒‒‒ ‒‒‒‒‒‒‒
‒‒‒‒‒‒‒‒‒ ‒‒‒‒‒‒‒‒‒‒ ‒‒‒‒‒‒‒‒‒‒ ‒‒‒‒‒‒‒‒‒‒ ‒‒‒‒‒‒‒‒‒‒ ‒‒‒‒‒‒‒‒‒‒ ‒‒‒‒‒‒‒‒‒‒ ‒‒‒‒‒‒‒‒‒‒ ‒‒‒‒‒‒‒‒‒‒ ‒‒‒‒‒‒‒‒‒‒ ‒‒‒‒‒‒‒‒‒‒ ‒‒‒‒‒‒‒‒‒‒ ‒‒‒‒‒‒‒‒‒‒ ‒‒‒‒‒‒‒‒‒‒ ‒‒‒‒‒‒‒‒‒‒ ‒‒‒‒‒‒‒‒‒‒ ‒‒‒‒‒‒‒‒‒‒ ‒‒‒‒‒‒‒‒‒‒ ‒‒‒‒‒‒‒‒‒‒ ‒‒‒‒‒‒‒‒‒‒ ‒‒‒‒‒‒‒‒‒‒ ‒‒‒‒‒‒‒‒‒‒ ‒‒‒‒‒‒‒‒‒‒ ‒‒‒‒‒‒‒‒‒‒ ‒‒‒‒‒‒‒‒‒‒ ‒‒‒‒‒‒‒‒‒‒ ‒‒‒‒‒‒‒‒‒‒ ‒‒‒‒‒‒‒‒‒‒ ‒‒‒‒‒‒‒‒‒‒ ‒‒‒‒‒‒‒‒‒‒ ‒‒‒‒‒‒‒‒‒‒ ‒‒‒‒‒‒‒‒‒‒ ‒‒‒‒‒‒‒‒‒‒ ‒‒‒‒‒‒‒‒‒‒ ‒‒‒‒‒‒‒‒‒‒ ‒‒‒‒‒‒‒‒‒‒ ‒‒‒‒‒‒‒‒‒‒ ‒‒‒‒‒‒‒‒‒‒ ‒‒‒‒‒‒‒‒‒‒ ‒‒‒‒‒‒‒‒‒‒ ‒‒‒‒‒‒‒‒‒‒ ‒‒‒‒‒‒‒‒‒‒ ‒‒‒‒‒‒‒‒‒‒ ‒‒‒‒‒‒‒‒‒‒ ‒‒‒‒‒‒‒‒‒‒ ‒‒‒‒‒‒‒‒‒‒ ‒‒‒‒‒‒‒‒‒‒ ‒‒‒‒‒‒‒‒‒‒ ‒‒‒‒‒‒‒‒‒‒ ‒‒‒‒‒‒‒‒‒‒ ‒‒‒‒‒‒‒‒‒‒ ‒‒‒‒‒‒‒‒‒‒ ‒‒‒‒‒‒‒‒‒‒ ‒‒‒‒‒‒‒‒‒‒ ‒‒‒‒‒‒‒‒‒‒ ‒‒‒‒‒‒‒‒‒‒ ‒‒‒‒‒‒‒‒‒‒ ‒‒‒‒‒‒‒‒‒‒ ‒‒‒‒‒‒‒‒‒‒ ‒‒‒‒‒‒‒‒‒‒ ‒‒‒‒‒‒‒‒‒‒ ‒‒‒‒‒‒‒‒‒‒ ‒‒‒‒‒‒‒‒‒‒ ‒‒‒‒‒‒‒‒‒‒ ‒‒‒‒‒‒‒‒‒‒ ‒‒‒‒‒‒‒‒‒‒ ‒‒‒‒‒‒‒‒‒‒ ‒‒‒‒‒‒‒‒‒‒ ‒‒‒‒‒‒‒‒‒‒ ‒‒‒‒‒‒‒‒‒‒ ‒‒‒‒‒‒‒‒‒‒ ‒‒‒‒‒‒‒‒‒‒ ‒‒‒‒‒‒‒‒‒‒ ‒‒‒‒‒‒‒‒‒‒ ‒‒‒‒‒‒‒‒‒‒ ‒‒‒‒‒‒‒‒‒‒ ‒‒‒‒‒‒‒‒‒‒ ‒‒‒‒‒‒‒‒‒‒ ‒‒‒‒‒‒‒‒‒‒ ‒‒‒‒‒‒‒‒‒‒ ‒‒‒‒‒‒‒‒‒‒ ‒‒‒‒‒‒‒‒‒‒ ‒‒‒‒‒‒‒‒‒‒ ‒‒‒‒‒‒‒‒‒‒ ‒‒‒‒‒‒‒‒‒‒ ‒‒‒‒‒‒‒‒‒‒ ‒‒‒‒‒‒‒‒‒‒ ‒‒‒‒‒‒‒‒‒‒ ‒‒‒‒‒‒‒‒‒‒ ‒‒‒‒‒‒‒‒‒‒ ‒‒‒‒‒‒‒‒‒‒ ‒‒‒‒‒‒‒‒‒‒ ‒‒‒‒‒‒‒‒‒‒ ‒‒‒‒‒‒‒‒‒‒ ‒‒‒‒‒‒‒‒‒‒ ‒‒‒‒‒‒‒‒‒‒ ‒‒‒‒‒‒‒‒‒‒ ‒‒‒‒‒‒‒‒‒‒ ‒‒‒‒‒‒‒‒‒‒ ‒‒‒‒‒‒‒‒‒‒ ‒‒‒‒‒‒‒‒‒‒ ‒‒‒‒‒‒‒‒‒‒ ‒‒‒‒‒‒‒‒‒‒ ‒‒‒‒‒‒‒‒‒‒ ‒‒‒‒‒‒‒‒‒‒ ‒‒‒‒‒‒‒‒‒‒ ‒‒‒‒‒‒‒‒‒‒ ‒‒‒‒‒‒‒‒‒‒ ‒‒‒‒‒‒‒‒‒‒ ‒‒‒‒‒‒‒‒‒‒ ‒‒‒‒‒‒‒‒‒‒ ‒‒‒‒‒‒‒‒‒‒ ‒‒‒‒‒‒‒‒‒‒ ‒‒‒‒‒‒‒‒‒‒ ‒‒‒‒‒‒‒‒‒‒ ‒‒‒‒‒‒‒‒‒‒ ‒‒‒‒‒‒‒‒‒‒ ‒‒‒‒‒‒‒‒‒‒ ‒‒‒‒‒‒‒‒‒‒ ‒‒‒‒‒‒‒‒‒‒ ‒‒‒‒‒‒‒‒‒‒ ‒‒‒‒‒‒‒‒‒‒ ‒‒‒‒‒‒‒‒‒‒ ‒‒‒‒‒‒‒‒‒‒ ‒‒‒‒‒‒‒‒‒‒ ‒‒‒‒‒‒‒‒‒‒ ‒‒‒‒‒‒‒‒‒‒ ‒‒‒‒‒‒‒‒‒‒ ‒‒‒‒‒‒‒‒‒‒ ‒‒‒‒‒‒‒‒‒‒ ‒‒‒‒‒‒‒‒‒‒ ‒‒‒‒‒‒‒‒‒‒ ‒‒‒‒‒‒‒‒‒‒ ‒‒‒‒‒‒‒‒‒‒ ‒‒‒‒‒‒‒‒‒‒ ‒‒‒‒‒‒‒‒‒‒ ‒‒‒‒‒‒‒‒‒‒ ‒‒‒‒‒‒‒‒‒‒ ‒‒‒‒‒‒‒‒‒‒ ‒‒‒‒‒‒‒‒‒‒ ‒‒‒‒‒‒‒‒‒‒ ‒‒‒‒‒‒‒‒‒‒ ‒‒‒‒‒‒‒‒‒‒ ‒‒‒‒‒‒‒‒‒‒ ‒‒‒‒‒‒‒‒‒‒ ‒‒‒‒‒‒‒‒‒‒ ‒‒‒‒‒‒‒‒‒‒ ‒‒‒‒‒‒‒‒‒‒ ‒‒‒‒‒‒‒‒‒‒ ‒‒‒‒‒‒‒‒‒‒ ‒‒‒‒‒‒‒‒‒‒ ‒‒‒‒‒‒‒‒‒‒ ‒‒‒‒‒‒‒‒‒‒ ‒‒‒‒‒‒‒‒‒‒ ‒‒‒‒‒‒‒‒‒‒ ‒‒‒‒‒‒‒‒‒‒ ‒‒‒‒‒‒‒‒‒‒ ‒‒‒‒‒‒‒‒‒‒ ‒‒‒‒‒‒‒‒‒‒ ‒‒‒‒‒‒‒‒‒‒ ‒‒‒‒‒‒‒‒‒‒ ‒‒‒‒‒‒‒‒‒‒ ‒‒‒‒‒‒‒‒‒‒ ‒‒‒‒‒‒‒‒‒‒ ‒‒‒‒‒‒‒‒‒‒ ‒‒‒‒‒‒‒‒‒‒ ‒‒‒‒‒‒‒‒‒‒ ‒‒‒‒‒‒‒‒‒‒ ‒‒‒‒‒‒‒‒‒‒ ‒‒‒‒‒‒‒‒‒‒ ‒‒‒‒‒‒‒‒‒‒ ‒‒‒‒‒‒‒‒‒‒ ‒‒‒‒‒‒‒‒‒‒ ‒‒‒‒‒‒‒‒‒‒ ‒‒‒‒‒‒‒‒‒‒ ‒‒‒‒‒‒‒‒‒‒ ‒‒‒‒‒‒‒‒‒‒ ‒‒‒‒‒‒‒‒‒‒ ‒‒‒‒‒‒‒‒‒‒ ‒‒‒‒‒‒‒‒‒‒ ‒‒‒‒‒‒‒‒‒‒ ‒‒‒‒‒‒‒‒‒‒ ‒‒‒‒‒‒‒‒‒‒ ‒‒‒‒‒‒‒‒‒‒ ‒‒‒‒‒‒‒‒‒‒ ‒‒‒‒‒‒‒‒‒‒ ‒‒‒‒‒‒‒‒‒‒ ‒‒‒‒‒‒‒‒‒‒ ‒‒‒‒‒‒‒‒‒‒ ‒‒‒‒‒‒‒‒‒‒ ‒‒‒‒‒‒‒‒‒‒
‒‒‒‒‒‒‒ ‒‒‒‒‒‒‒‒‒‒ ‒‒‒‒‒‒‒‒‒‒ ‒‒‒‒‒‒‒‒‒‒ ‒‒‒‒‒‒‒‒‒‒ ‒‒‒‒‒‒‒‒‒‒ ‒‒‒‒‒‒‒‒‒‒ ‒‒‒‒‒‒‒‒‒‒ ‒‒‒‒‒‒‒‒‒‒ ‒‒‒‒‒‒‒‒‒‒ ‒‒‒‒‒‒‒‒‒‒ ‒‒‒‒‒‒‒‒‒‒ ‒‒‒‒‒‒‒‒‒‒ ‒‒‒‒‒‒‒‒‒‒ ‒‒‒‒‒‒‒‒‒‒ ‒‒‒‒‒‒‒‒‒‒ ‒‒‒‒‒‒‒‒‒‒ ‒‒‒‒‒‒‒‒‒‒ ‒‒‒‒‒‒‒‒‒‒ ‒‒‒‒‒‒‒‒‒‒ ‒‒‒‒‒‒‒‒‒‒ ‒‒‒‒‒‒‒‒‒‒ ‒‒‒‒‒‒‒‒‒‒ ‒‒‒‒‒‒‒‒‒‒ ‒‒‒‒‒‒‒‒‒‒ ‒‒‒‒‒‒‒‒‒‒ ‒‒‒‒‒‒‒‒‒‒ ‒‒‒‒‒‒‒‒‒‒ ‒‒‒‒‒‒‒‒‒‒ ‒‒‒‒‒‒‒‒‒‒ ‒‒‒‒‒‒‒‒‒‒ ‒‒‒‒‒‒‒‒‒‒ ‒‒‒‒‒‒‒‒‒‒ ‒‒‒‒‒‒‒‒‒‒ ‒‒‒‒‒‒‒‒‒‒ ‒‒‒‒‒‒‒‒‒‒ ‒‒‒‒‒‒‒‒‒‒ ‒‒‒‒‒‒‒‒‒‒ ‒‒‒‒‒‒‒‒‒‒ ‒‒‒‒‒‒‒‒‒‒ ‒‒‒‒‒‒‒‒‒‒ ‒‒‒‒‒‒‒‒‒‒ ‒‒‒‒‒‒‒‒‒‒ ‒‒‒‒‒‒‒‒‒‒ ‒‒‒‒‒‒‒‒‒‒ ‒‒‒‒‒‒‒‒‒‒ ‒‒‒‒‒‒‒‒‒‒ ‒‒‒‒‒‒‒‒‒‒ ‒‒‒‒‒‒‒‒‒‒ ‒‒‒‒‒‒‒‒‒‒ ‒‒‒‒‒‒‒‒‒‒ ‒‒‒‒‒‒‒‒‒‒ ‒‒‒‒‒‒‒‒‒‒ ‒‒‒‒‒‒‒‒‒‒ ‒‒‒‒‒‒‒‒‒‒ ‒‒‒‒‒‒‒‒‒‒ ‒‒‒‒‒‒‒‒‒‒ ‒‒‒‒‒‒‒‒‒‒ ‒‒‒‒‒‒‒‒‒‒ ‒‒‒‒‒‒‒‒‒‒ ‒‒‒‒‒‒‒‒‒‒ ‒‒‒‒‒‒‒‒‒‒ ‒‒‒‒‒‒‒‒‒‒ ‒‒‒‒‒‒‒‒‒‒ ‒‒‒‒‒‒‒‒‒‒ ‒‒‒‒‒‒‒‒‒‒ ‒‒‒‒‒‒‒‒‒‒ ‒‒‒‒‒‒‒‒‒‒ ‒‒‒‒‒‒‒‒‒‒ ‒‒‒‒‒‒‒‒‒‒ ‒‒‒‒‒‒‒‒‒‒ ‒‒‒‒‒‒‒‒‒‒ ‒‒‒‒‒‒‒‒‒‒ ‒‒‒‒‒‒‒‒‒‒ ‒‒‒‒‒‒‒‒‒‒ ‒‒‒‒‒‒‒‒‒‒ ‒‒‒‒‒‒‒‒‒‒ ‒‒‒‒‒‒‒‒‒‒ ‒‒‒‒‒‒‒‒‒‒ ‒‒‒‒‒‒‒‒‒‒ ‒‒‒‒‒‒‒‒‒‒ ‒‒‒‒‒‒‒‒‒‒ ‒‒‒‒‒‒‒‒‒‒ ‒‒‒‒‒‒‒‒‒‒ ‒‒‒‒‒‒‒‒‒‒ ‒‒‒‒‒‒‒‒‒‒ ‒‒‒‒‒‒‒‒‒‒ ‒‒‒‒‒‒‒‒‒‒ ‒‒‒‒‒‒‒‒‒‒ ‒‒‒‒‒‒‒‒‒‒ ‒‒‒‒‒‒‒‒‒‒ ‒‒‒‒‒‒‒‒‒‒ ‒‒‒‒‒‒‒‒‒‒ ‒‒‒‒‒‒‒‒‒‒ ‒‒‒‒‒‒‒‒‒‒ ‒‒‒‒‒‒‒‒‒‒ ‒‒‒‒‒‒‒‒‒‒ ‒‒‒‒‒‒‒‒‒‒ ‒‒‒‒‒‒‒‒‒‒ ‒‒‒‒‒‒‒‒‒‒ ‒‒‒‒‒‒‒‒‒‒ ‒‒‒‒‒‒‒‒‒‒ ‒‒‒‒‒‒‒‒‒‒ ‒‒‒‒‒‒‒‒‒‒ ‒‒‒‒‒‒‒‒‒‒ ‒‒‒‒‒‒‒‒‒‒ ‒‒‒‒‒‒‒‒‒‒ ‒‒‒‒‒‒‒‒‒‒ ‒‒‒‒‒‒‒‒‒‒ ‒‒‒‒‒‒‒‒‒‒ ‒‒‒‒‒‒‒‒‒‒ ‒‒‒‒‒‒‒‒‒‒ ‒‒‒‒‒‒‒‒‒‒ ‒‒‒‒‒‒‒‒‒‒ ‒‒‒‒‒‒‒‒‒‒ ‒‒‒‒‒‒‒‒‒‒ ‒‒‒‒‒‒‒‒‒‒ ‒‒‒‒‒‒‒‒‒‒ ‒‒‒‒‒‒‒‒‒‒ ‒‒‒‒‒‒‒‒‒‒ ‒‒‒‒‒‒‒‒‒‒ ‒‒‒‒‒‒‒‒‒‒ ‒‒‒‒‒‒‒‒‒‒ ‒‒‒‒‒‒‒‒‒‒ ‒‒‒‒‒‒‒‒‒‒ ‒‒‒‒‒‒‒‒‒‒ ‒‒‒‒‒‒‒‒‒‒ ‒‒‒‒‒‒‒‒‒‒ ‒‒‒‒‒‒‒‒‒‒ ‒‒‒‒‒‒‒‒‒‒ ‒‒‒‒‒‒‒‒‒‒ ‒‒‒‒‒‒‒‒‒‒ ‒‒‒‒‒‒‒‒‒‒ ‒‒‒‒‒‒‒‒‒‒ ‒‒‒‒‒‒‒‒‒‒ ‒‒‒‒‒‒‒‒‒‒ ‒‒‒‒‒‒‒‒‒‒ ‒‒‒‒‒‒‒‒‒‒ ‒‒‒‒‒‒‒‒‒‒ ‒‒‒‒‒‒‒‒‒‒ ‒‒‒‒‒‒‒‒‒‒ ‒‒‒‒‒‒‒‒‒‒ ‒‒‒‒‒‒‒‒‒‒ ‒‒‒‒‒‒‒‒‒‒ ‒‒‒‒‒‒‒‒‒‒ ‒‒‒‒‒‒‒‒‒‒ ‒‒‒‒‒‒‒‒‒‒ ‒‒‒‒‒‒‒‒‒‒ ‒‒‒‒‒‒‒‒‒‒ ‒‒‒‒‒‒‒‒‒‒ ‒‒‒‒‒‒‒‒‒‒ ‒‒‒‒‒‒‒‒‒‒ ‒‒‒‒‒‒‒‒‒‒ ‒‒‒‒‒‒‒‒‒‒ ‒‒‒‒‒‒‒‒‒‒ ‒‒‒‒‒‒‒‒‒‒ ‒‒‒‒‒‒‒‒‒‒ ‒‒‒‒‒‒‒‒‒‒ ‒‒‒‒‒‒‒‒‒‒ ‒‒‒‒‒‒‒‒‒‒ ‒‒‒‒‒‒‒‒‒‒ ‒‒‒‒‒‒‒‒‒‒ ‒‒‒‒‒‒‒‒‒‒ ‒‒‒‒‒‒‒‒‒‒ ‒‒‒‒‒‒‒‒‒‒ ‒‒‒‒‒‒‒‒‒‒ ‒‒‒‒‒‒‒‒‒‒ ‒‒‒‒‒‒‒‒‒‒ ‒‒‒‒‒‒‒‒‒‒ ‒‒‒‒‒‒‒‒‒‒ ‒‒‒‒‒‒‒‒‒‒ ‒‒‒‒‒‒‒‒‒‒ ‒‒‒‒‒‒‒‒‒‒ ‒‒‒‒‒‒‒‒‒‒ ‒‒‒‒‒‒‒‒‒‒ ‒‒‒‒‒‒‒‒‒‒ ‒‒‒‒‒‒‒‒‒‒ ‒‒‒‒‒‒‒‒‒‒ ‒‒‒‒‒‒‒‒‒‒ ‒‒‒‒‒‒‒‒‒‒ ‒‒‒‒‒‒‒‒‒‒ ‒‒‒‒‒‒‒‒‒‒ ‒‒‒‒‒‒‒‒‒‒ ‒‒‒‒‒‒‒‒‒‒ ‒‒‒‒‒‒‒‒‒‒ ‒‒‒‒‒‒‒‒‒‒ ‒‒‒‒‒‒‒‒‒‒ ‒‒‒‒‒‒‒‒‒‒ ‒‒‒‒‒‒‒‒‒‒ ‒‒‒‒‒‒‒‒‒‒ ‒‒‒‒‒‒‒‒‒‒ ‒‒‒‒‒‒‒‒‒‒ ‒‒‒‒‒‒‒‒‒‒ ‒‒‒‒‒‒‒‒‒‒ ‒‒‒‒‒‒‒‒‒‒ ‒‒‒‒‒‒‒‒‒‒ ‒‒‒‒‒‒‒‒‒‒ ‒‒‒‒‒‒‒‒‒‒ ‒‒‒‒‒‒‒‒‒‒ ‒‒‒‒‒‒‒‒‒‒ ‒‒‒‒‒‒‒‒‒‒ ‒‒‒‒‒‒‒‒‒‒ ‒‒‒‒‒‒‒‒‒‒ ‒‒‒‒‒‒‒‒‒‒ ‒‒‒‒‒‒‒‒‒‒ ‒‒‒‒‒‒‒‒‒‒ ‒‒‒‒‒‒‒‒‒‒ ‒‒‒‒‒‒‒‒‒‒ ‒‒‒‒‒‒‒‒‒‒ ‒‒‒‒‒‒‒‒‒‒ ‒‒‒‒‒‒‒‒‒‒ ‒‒‒‒‒‒‒‒‒‒ ‒‒‒‒‒‒‒‒‒‒ ‒‒‒‒‒‒‒‒‒‒ ‒‒‒‒‒‒‒‒‒‒ ‒‒‒‒‒‒‒‒‒‒ ‒‒‒‒‒‒‒‒‒‒ ‒‒‒‒‒‒‒‒‒‒ ‒‒‒‒‒‒‒‒‒‒ ‒‒‒‒‒‒‒‒‒‒ ‒‒‒‒‒‒‒‒‒‒ ‒‒‒‒‒‒‒‒‒‒ ‒‒‒‒‒‒‒‒‒‒ ‒‒‒‒‒‒‒‒‒‒ ‒‒‒‒‒‒‒‒‒‒ ‒‒‒‒‒‒‒‒‒‒ ‒‒‒‒‒‒‒‒‒‒ ‒‒‒‒‒‒‒‒‒‒ ‒‒‒‒‒‒‒‒‒‒ ‒‒‒‒‒‒‒‒‒‒ ‒‒‒‒‒‒‒‒‒‒ ‒‒‒‒‒‒‒‒‒‒ ‒‒‒‒‒‒‒‒‒‒ ‒‒‒‒‒‒‒‒‒‒ ‒‒‒‒‒‒‒‒‒‒ ‒‒‒‒‒‒‒‒‒‒ ‒‒‒‒‒‒‒‒‒‒ ‒‒‒‒‒‒‒‒‒‒ ‒‒‒‒‒‒‒‒‒‒ ‒‒‒‒‒‒‒‒‒‒ ‒‒‒‒‒‒‒‒‒‒ ‒‒‒‒‒‒‒‒‒‒ ‒‒‒‒‒‒‒‒‒‒ ‒‒‒‒‒‒‒‒‒‒ ‒‒‒‒‒‒‒‒‒‒ ‒‒‒‒‒‒‒‒
‒‒‒‒‒ ‒‒‒‒‒‒‒‒‒‒ ‒‒‒‒‒‒‒‒‒‒ ‒‒‒‒‒‒‒‒‒‒ ‒‒‒‒‒‒‒‒‒‒ ‒‒‒‒‒‒‒‒‒‒ ‒‒‒‒‒‒‒‒‒‒ ‒‒‒‒‒‒‒‒‒‒ ‒‒‒‒‒‒‒‒‒‒ ‒‒‒‒‒‒‒‒‒‒ ‒‒‒‒‒‒‒‒‒‒ ‒‒‒‒‒‒‒‒‒‒ ‒‒‒‒‒‒‒‒‒‒ ‒‒‒‒‒‒‒‒‒‒ ‒‒‒‒‒‒‒‒‒‒ ‒‒‒‒‒‒‒‒‒‒ ‒‒‒‒‒‒‒‒‒‒ ‒‒‒‒‒‒‒‒‒‒ ‒‒‒‒‒‒‒‒‒‒ ‒‒‒‒‒‒‒‒‒‒ ‒‒‒‒‒‒‒‒‒‒ ‒‒‒‒‒‒‒‒‒‒ ‒‒‒‒‒‒‒‒‒‒ ‒‒‒‒‒‒‒‒‒‒ ‒‒‒‒‒‒‒‒‒‒ ‒‒‒‒‒‒‒‒‒‒ ‒‒‒‒‒‒‒‒‒‒ ‒‒‒‒‒‒‒‒‒‒ ‒‒‒‒‒‒‒‒‒‒ ‒‒‒‒‒‒‒‒‒‒ ‒‒‒‒‒‒‒‒‒‒ ‒‒‒‒‒‒‒‒‒‒ ‒‒‒‒‒‒‒‒‒‒ ‒‒‒‒‒‒‒‒‒‒ ‒‒‒‒‒‒‒‒‒‒ ‒‒‒‒‒‒‒‒‒‒ ‒‒‒‒‒‒‒‒‒‒ ‒‒‒‒‒‒‒‒‒‒ ‒‒‒‒‒‒‒‒‒‒ ‒‒‒‒‒‒‒‒‒‒ ‒‒‒‒‒‒‒‒‒‒ ‒‒‒‒‒‒‒‒‒‒ ‒‒‒‒‒‒‒‒‒‒ ‒‒‒‒‒‒‒‒‒‒ ‒‒‒‒‒‒‒‒‒‒ ‒‒‒‒‒‒‒‒‒‒ ‒‒‒‒‒‒‒‒‒‒ ‒‒‒‒‒‒‒‒‒‒ ‒‒‒‒‒‒‒‒‒‒ ‒‒‒‒‒‒‒‒‒‒ ‒‒‒‒‒‒‒‒‒‒ ‒‒‒‒‒‒‒‒‒‒ ‒‒‒‒‒‒‒‒‒‒ ‒‒‒‒‒‒‒‒‒‒ ‒‒‒‒‒‒‒‒‒‒ ‒‒‒‒‒‒‒‒‒‒ ‒‒‒‒‒‒‒‒‒‒ ‒‒‒‒‒‒‒‒‒‒ ‒‒‒‒‒‒‒‒‒‒ ‒‒‒‒‒‒‒‒‒‒ ‒‒‒‒‒‒‒‒‒‒ ‒‒‒‒‒‒‒‒‒‒ ‒‒‒‒‒‒‒‒‒‒ ‒‒‒‒‒‒‒‒‒‒ ‒‒‒‒‒‒‒‒‒‒ ‒‒‒‒‒‒‒‒‒‒ ‒‒‒‒‒‒‒‒‒‒ ‒‒‒‒‒‒‒‒‒‒ ‒‒‒‒‒‒‒‒‒‒ ‒‒‒‒‒‒‒‒‒‒ ‒‒‒‒‒‒‒‒‒‒ ‒‒‒‒‒‒‒‒‒‒ ‒‒‒‒‒‒‒‒‒‒ ‒‒‒‒‒‒‒‒‒‒ ‒‒‒‒‒‒‒‒‒‒ ‒‒‒‒‒‒‒‒‒‒ ‒‒‒‒‒‒‒‒‒‒ ‒‒‒‒‒‒‒‒‒‒ ‒‒‒‒‒‒‒‒‒‒ ‒‒‒‒‒‒‒‒‒‒ ‒‒‒‒‒‒‒‒‒‒ ‒‒‒‒‒‒‒‒‒‒ ‒‒‒‒‒‒‒‒‒‒ ‒‒‒‒‒‒‒‒‒‒ ‒‒‒‒‒‒‒‒‒‒ ‒‒‒‒‒‒‒‒‒‒ ‒‒‒‒‒‒‒‒‒‒ ‒‒‒‒‒‒‒‒‒‒ ‒‒‒‒‒‒‒‒‒‒ ‒‒‒‒‒‒‒‒‒‒ ‒‒‒‒‒‒‒‒‒‒ ‒‒‒‒‒‒‒‒‒‒ ‒‒‒‒‒‒‒‒‒‒ ‒‒‒‒‒‒‒‒‒‒ ‒‒‒‒‒‒‒‒‒‒ ‒‒‒‒‒‒‒‒‒‒ ‒‒‒‒‒‒‒‒‒‒ ‒‒‒‒‒‒‒‒‒‒ ‒‒‒‒‒‒‒‒‒‒ ‒‒‒‒‒‒‒‒‒‒ ‒‒‒‒‒‒‒‒‒‒ ‒‒‒‒‒‒‒‒‒‒ ‒‒‒‒‒‒‒‒‒‒ ‒‒‒‒‒‒‒‒‒‒ ‒‒‒‒‒‒‒‒‒‒ ‒‒‒‒‒‒‒‒‒‒ ‒‒‒‒‒‒‒‒‒‒ ‒‒‒‒‒‒‒‒‒‒ ‒‒‒‒‒‒‒‒‒‒ ‒‒‒‒‒‒‒‒‒‒ ‒‒‒‒‒‒‒‒‒‒ ‒‒‒‒‒‒‒‒‒‒ ‒‒‒‒‒‒‒‒‒‒ ‒‒‒‒‒‒‒‒‒‒ ‒‒‒‒‒‒‒‒‒‒ ‒‒‒‒‒‒‒‒‒‒ ‒‒‒‒‒‒‒‒‒‒ ‒‒‒‒‒‒‒‒‒‒ ‒‒‒‒‒‒‒‒‒‒ ‒‒‒‒‒‒‒‒‒‒ ‒‒‒‒‒‒‒‒‒‒ ‒‒‒‒‒‒‒‒‒‒ ‒‒‒‒‒‒‒‒‒‒ ‒‒‒‒‒‒‒‒‒‒ ‒‒‒‒‒‒‒‒‒‒ ‒‒‒‒‒‒‒‒‒‒ ‒‒‒‒‒‒‒‒‒‒ ‒‒‒‒‒‒‒‒‒‒ ‒‒‒‒‒‒‒‒‒‒ ‒‒‒‒‒‒‒‒‒‒ ‒‒‒‒‒‒‒‒‒‒ ‒‒‒‒‒‒‒‒‒‒ ‒‒‒‒‒‒‒‒‒‒ ‒‒‒‒‒‒‒‒‒‒ ‒‒‒‒‒‒‒‒‒‒ ‒‒‒‒‒‒‒‒‒‒ ‒‒‒‒‒‒‒‒‒‒ ‒‒‒‒‒‒‒‒‒‒ ‒‒‒‒‒‒‒‒‒‒ ‒‒‒‒‒‒‒‒‒‒ ‒‒‒‒‒‒‒‒‒‒ ‒‒‒‒‒‒‒‒‒‒ ‒‒‒‒‒‒‒‒‒‒ ‒‒‒‒‒‒‒‒‒‒ ‒‒‒‒‒‒‒‒‒‒ ‒‒‒‒‒‒‒‒‒‒ ‒‒‒‒‒‒‒‒‒‒ ‒‒‒‒‒‒‒‒‒‒ ‒‒‒‒‒‒‒‒‒‒ ‒‒‒‒‒‒‒‒‒‒ ‒‒‒‒‒‒‒‒‒‒ ‒‒‒‒‒‒‒‒‒‒ ‒‒‒‒‒‒‒‒‒‒ ‒‒‒‒‒‒‒‒‒‒ ‒‒‒‒‒‒‒‒‒‒ ‒‒‒‒‒‒‒‒‒‒ ‒‒‒‒‒‒‒‒‒‒ ‒‒‒‒‒‒‒‒‒‒ ‒‒‒‒‒‒‒‒‒‒ ‒‒‒‒‒‒‒‒‒‒ ‒‒‒‒‒‒‒‒‒‒ ‒‒‒‒‒‒‒‒‒‒ ‒‒‒‒‒‒‒‒‒‒ ‒‒‒‒‒‒‒‒‒‒ ‒‒‒‒‒‒‒‒‒‒ ‒‒‒‒‒‒‒‒‒‒ ‒‒‒‒‒‒‒‒‒‒ ‒‒‒‒‒‒‒‒‒‒ ‒‒‒‒‒‒‒‒‒‒ ‒‒‒‒‒‒‒‒‒‒ ‒‒‒‒‒‒‒‒‒‒ ‒‒‒‒‒‒‒‒‒‒ ‒‒‒‒‒‒‒‒‒‒ ‒‒‒‒‒‒‒‒‒‒ ‒‒‒‒‒‒‒‒‒‒ ‒‒‒‒‒‒‒‒‒‒ ‒‒‒‒‒‒‒‒‒‒ ‒‒‒‒‒‒‒‒‒‒ ‒‒‒‒‒‒‒‒‒‒ ‒‒‒‒‒‒‒‒‒‒ ‒‒‒‒‒‒‒‒‒‒ ‒‒‒‒‒‒‒‒‒‒ ‒‒‒‒‒‒‒‒‒‒ ‒‒‒‒‒‒‒‒‒‒ ‒‒‒‒‒‒‒‒‒‒ ‒‒‒‒‒‒‒‒‒‒ ‒‒‒‒‒‒‒‒‒‒ ‒‒‒‒‒‒‒‒‒‒ ‒‒‒‒‒‒‒‒‒‒ ‒‒‒‒‒‒‒‒‒‒ ‒‒‒‒‒‒‒‒‒‒ ‒‒‒‒‒‒‒‒‒‒ ‒‒‒‒‒‒‒‒‒‒ ‒‒‒‒‒‒‒‒‒‒ ‒‒‒‒‒‒‒‒‒‒ ‒‒‒‒‒‒‒‒‒‒ ‒‒‒‒‒‒‒‒‒‒ ‒‒‒‒‒‒‒‒‒‒ ‒‒‒‒‒‒‒‒‒‒ ‒‒‒‒‒‒‒‒‒‒ ‒‒‒‒‒‒‒‒‒‒ ‒‒‒‒‒‒‒‒‒‒ ‒‒‒‒‒‒‒‒‒‒ ‒‒‒‒‒‒‒‒‒‒ ‒‒‒‒‒‒‒‒‒‒ ‒‒‒‒‒‒‒‒‒‒ ‒‒‒‒‒‒‒‒‒‒ ‒‒‒‒‒‒‒‒‒‒ ‒‒‒‒‒‒‒‒‒‒ ‒‒‒‒‒‒
‒‒‒ ‒‒‒‒‒‒‒‒‒‒ ‒‒‒‒‒‒‒‒‒‒ ‒‒‒‒‒‒‒‒‒‒ ‒‒‒‒‒‒‒‒‒‒ ‒‒‒‒‒‒‒‒‒‒ ‒‒‒‒‒‒‒‒‒‒ ‒‒‒‒‒‒‒‒‒‒ ‒‒‒‒‒‒‒‒‒‒ ‒‒‒‒‒‒‒‒‒‒ ‒‒‒‒‒‒‒‒‒‒ ‒‒‒‒‒‒‒‒‒‒ ‒‒‒‒‒‒‒‒‒‒ ‒‒‒‒‒‒‒‒‒‒ ‒‒‒‒‒‒‒‒‒‒ ‒‒‒‒‒‒‒‒‒‒ ‒‒‒‒‒‒‒‒‒‒ ‒‒‒‒‒‒‒‒‒‒ ‒‒‒‒‒‒‒‒‒‒ ‒‒‒‒‒‒‒‒‒‒ ‒‒‒‒‒‒‒‒‒‒ ‒‒‒‒‒‒‒‒‒‒ ‒‒‒‒‒‒‒‒‒‒ ‒‒‒‒‒‒‒‒‒‒ ‒‒‒‒‒‒‒‒‒‒ ‒‒‒‒‒‒‒‒‒‒ ‒‒‒‒‒‒‒‒‒‒ ‒‒‒‒‒‒‒‒‒‒ ‒‒‒‒‒‒‒‒‒‒ ‒‒‒‒‒‒‒‒‒‒ ‒‒‒‒‒‒‒‒‒‒ ‒‒‒‒‒‒‒‒‒‒ ‒‒‒‒‒‒‒‒‒‒ ‒‒‒‒‒‒‒‒‒‒ ‒‒‒‒‒‒‒‒‒‒ ‒‒‒‒‒‒‒‒‒‒ ‒‒‒‒‒‒‒‒‒‒ ‒‒‒‒‒‒‒‒‒‒ ‒‒‒‒‒‒‒‒‒‒ ‒‒‒‒‒‒‒‒‒‒ ‒‒‒‒‒‒‒‒‒‒ ‒‒‒‒‒‒‒‒‒‒ ‒‒‒‒‒‒‒‒‒‒ ‒‒‒‒‒‒‒‒‒‒ ‒‒‒‒‒‒‒‒‒‒ ‒‒‒‒‒‒‒‒‒‒ ‒‒‒‒‒‒‒‒‒‒ ‒‒‒‒‒‒‒‒‒‒ ‒‒‒‒‒‒‒‒‒‒ ‒‒‒‒‒‒‒‒‒‒ ‒‒‒‒‒‒‒‒‒‒ ‒‒‒‒‒‒‒‒‒‒ ‒‒‒‒‒‒‒‒‒‒ ‒‒‒‒‒‒‒‒‒‒ ‒‒‒‒‒‒‒‒‒‒ ‒‒‒‒‒‒‒‒‒‒ ‒‒‒‒‒‒‒‒‒‒ ‒‒‒‒‒‒‒‒‒‒ ‒‒‒‒‒‒‒‒‒‒ ‒‒‒‒‒‒‒‒‒‒ ‒‒‒‒‒‒‒‒‒‒ ‒‒‒‒‒‒‒‒‒‒ ‒‒‒‒‒‒‒‒‒‒ ‒‒‒‒‒‒‒‒‒‒ ‒‒‒‒‒‒‒‒‒‒ ‒‒‒‒‒‒‒‒‒‒ ‒‒‒‒‒‒‒‒‒‒ ‒‒‒‒‒‒‒‒‒‒ ‒‒‒‒‒‒‒‒‒‒ ‒‒‒‒‒‒‒‒‒‒ ‒‒‒‒‒‒‒‒‒‒ ‒‒‒‒‒‒‒‒‒‒ ‒‒‒‒‒‒‒‒‒‒ ‒‒‒‒‒‒‒‒‒‒ ‒‒‒‒‒‒‒‒‒‒ ‒‒‒‒‒‒‒‒‒‒ ‒‒‒‒‒‒‒‒‒‒ ‒‒‒‒‒‒‒‒‒‒ ‒‒‒‒‒‒‒‒‒‒ ‒‒‒‒‒‒‒‒‒‒ ‒‒‒‒‒‒‒‒‒‒ ‒‒‒‒‒‒‒‒‒‒ ‒‒‒‒‒‒‒‒‒‒ ‒‒‒‒‒‒‒‒‒‒ ‒‒‒‒‒‒‒‒‒‒ ‒‒‒‒‒‒‒‒‒‒ ‒‒‒‒‒‒‒‒‒‒ ‒‒‒‒‒‒‒‒‒‒ ‒‒‒‒‒‒‒‒‒‒ ‒‒‒‒‒‒‒‒‒‒ ‒‒‒‒‒‒‒‒‒‒ ‒‒‒‒‒‒‒‒‒‒ ‒‒‒‒‒‒‒‒‒‒ ‒‒‒‒‒‒‒‒‒‒ ‒‒‒‒‒‒‒‒‒‒ ‒‒‒‒‒‒‒‒‒‒ ‒‒‒‒‒‒‒‒‒‒ ‒‒‒‒‒‒‒‒‒‒ ‒‒‒‒‒‒‒‒‒‒ ‒‒‒‒‒‒‒‒‒‒ ‒‒‒‒‒‒‒‒‒‒ ‒‒‒‒‒‒‒‒‒‒ ‒‒‒‒‒‒‒‒‒‒ ‒‒‒‒‒‒‒‒‒‒ ‒‒‒‒‒‒‒‒‒‒ ‒‒‒‒‒‒‒‒‒‒ ‒‒‒‒‒‒‒‒‒‒ ‒‒‒‒‒‒‒‒‒‒ ‒‒‒‒‒‒‒‒‒‒ ‒‒‒‒‒‒‒‒‒‒ ‒‒‒‒‒‒‒‒‒‒ ‒‒‒‒‒‒‒‒‒‒ ‒‒‒‒‒‒‒‒‒‒ ‒‒‒‒‒‒‒‒‒‒ ‒‒‒‒‒‒‒‒‒‒ ‒‒‒‒‒‒‒‒‒‒ ‒‒‒‒‒‒‒‒‒‒ ‒‒‒‒‒‒‒‒‒‒ ‒‒‒‒‒‒‒‒‒‒ ‒‒‒‒‒‒‒‒‒‒ ‒‒‒‒‒‒‒‒‒‒ ‒‒‒‒‒‒‒‒‒‒ ‒‒‒‒‒‒‒‒‒‒ ‒‒‒‒‒‒‒‒‒‒ ‒‒‒‒‒‒‒‒‒‒ ‒‒‒‒‒‒‒‒‒‒ ‒‒‒‒‒‒‒‒‒‒ ‒‒‒‒‒‒‒‒‒‒ ‒‒‒‒‒‒‒‒‒‒ ‒‒‒‒‒‒‒‒‒‒ ‒‒‒‒‒‒‒‒‒‒ ‒‒‒‒‒‒‒‒‒‒ ‒‒‒‒‒‒‒‒‒‒ ‒‒‒‒‒‒‒‒‒‒ ‒‒‒‒‒‒‒‒‒‒ ‒‒‒‒‒‒‒‒‒‒ ‒‒‒‒‒‒‒‒‒‒ ‒‒‒‒‒‒‒‒‒‒ ‒‒‒‒‒‒‒‒‒‒ ‒‒‒‒‒‒‒‒‒‒ ‒‒‒‒‒‒‒‒‒‒ ‒‒‒‒‒‒‒‒‒‒ ‒‒‒‒‒‒‒‒‒‒ ‒‒‒‒‒‒‒‒‒‒ ‒‒‒‒‒‒‒‒‒‒ ‒‒‒‒‒‒‒‒‒‒ ‒‒‒‒‒‒‒‒‒‒ ‒‒‒‒‒‒‒‒‒‒ ‒‒‒‒‒‒‒‒‒‒ ‒‒‒‒‒‒‒‒‒‒ ‒‒‒‒‒‒‒‒‒‒ ‒‒‒‒‒‒‒‒‒‒ ‒‒‒‒‒‒‒‒‒‒ ‒‒‒‒‒‒‒‒‒‒ ‒‒‒‒‒‒‒‒‒‒ ‒‒‒‒‒‒‒‒‒‒ ‒‒‒‒‒‒‒‒‒‒ ‒‒‒‒‒‒‒‒‒‒ ‒‒‒‒‒‒‒‒‒‒ ‒‒‒‒‒‒‒‒‒‒ ‒‒‒‒‒‒‒‒‒‒ ‒‒‒‒‒‒‒‒‒‒ ‒‒‒‒‒‒‒‒‒‒ ‒‒‒‒‒‒‒‒‒‒ ‒‒‒‒‒‒‒‒‒‒ ‒‒‒‒‒‒‒‒‒‒ ‒‒‒‒‒‒‒‒‒‒ ‒‒‒‒‒‒‒‒‒‒ ‒‒‒‒‒‒‒‒‒‒ ‒‒‒‒‒‒‒‒‒‒ ‒‒‒‒‒‒‒‒‒‒ ‒‒‒‒‒‒‒‒‒‒ ‒‒‒‒‒‒‒‒‒‒ ‒‒‒‒‒‒‒‒‒‒ ‒‒‒‒‒‒‒‒‒‒ ‒‒‒‒‒‒‒‒‒‒ ‒‒‒‒‒‒‒‒‒‒ ‒‒‒‒‒‒‒‒‒‒ ‒‒‒‒‒‒‒‒‒‒ ‒‒‒‒‒‒‒‒‒‒ ‒‒‒‒‒‒‒‒‒‒ ‒‒‒‒‒‒‒‒‒‒ ‒‒‒‒‒‒‒‒‒‒ ‒‒‒‒‒‒‒‒‒‒ ‒‒‒‒‒‒‒‒‒‒ ‒‒‒‒‒‒‒‒‒‒ ‒‒‒‒‒‒‒‒‒‒ ‒‒‒‒‒‒‒‒‒‒ ‒‒‒‒‒‒‒‒‒‒ ‒‒‒‒‒‒‒‒‒‒ ‒‒‒‒‒‒‒‒‒‒ ‒‒‒‒‒‒‒‒‒‒ ‒‒‒‒‒‒‒‒‒‒ ‒‒‒‒‒‒‒‒‒‒ ‒‒‒‒‒‒‒‒‒‒ ‒‒‒‒‒‒‒‒‒‒ ‒‒‒‒‒‒‒‒‒‒ ‒‒‒‒‒‒‒‒‒‒ ‒‒‒‒‒‒‒‒‒‒ ‒‒‒‒‒‒‒‒‒‒ ‒‒‒‒‒‒‒
‒ ‒‒‒‒‒‒‒‒‒‒ ‒‒‒‒‒‒‒‒‒‒ ‒‒‒‒‒‒‒‒‒‒ ‒‒‒‒‒‒‒‒‒‒ ‒‒‒‒‒‒‒‒‒‒ ‒‒‒‒‒‒‒‒‒‒ ‒‒‒‒‒‒‒‒‒‒ ‒‒‒‒‒‒‒‒‒‒ ‒‒‒‒‒‒‒‒‒‒ ‒‒‒‒‒‒‒‒‒‒ ‒‒‒‒‒‒‒‒‒‒ ‒‒‒‒‒‒‒‒‒‒ ‒‒‒‒‒‒‒‒‒‒ ‒‒‒‒‒‒‒‒‒‒ ‒‒‒‒‒‒‒‒‒‒ ‒‒‒‒‒‒‒‒‒‒ ‒‒‒‒‒‒‒‒‒‒ ‒‒‒‒‒‒‒‒‒‒ ‒‒‒‒‒‒‒‒‒‒ ‒‒‒‒‒‒‒‒‒‒ ‒‒‒‒‒‒‒‒‒‒ ‒‒‒‒‒‒‒‒‒‒ ‒‒‒‒‒‒‒‒‒‒ ‒‒‒‒‒‒‒‒‒‒ ‒‒‒‒‒‒‒‒‒‒ ‒‒‒‒‒‒‒‒‒‒ ‒‒‒‒‒‒‒‒‒‒ ‒‒‒‒‒‒‒‒‒‒ ‒‒‒‒‒‒‒‒‒‒ ‒‒‒‒‒‒‒‒‒‒ ‒‒‒‒‒‒‒‒‒‒ ‒‒‒‒‒‒‒‒‒‒ ‒‒‒‒‒‒‒‒‒‒ ‒‒‒‒‒‒‒‒‒‒ ‒‒‒‒‒‒‒‒‒‒ ‒‒‒‒‒‒‒‒‒‒ ‒‒‒‒‒‒‒‒‒‒ ‒‒‒‒‒‒‒‒‒‒ ‒‒‒‒‒‒‒‒‒‒ ‒‒‒‒‒‒‒‒‒‒ ‒‒‒‒‒‒‒‒‒‒ ‒‒‒‒‒‒‒‒‒‒ ‒‒‒‒‒‒‒‒‒‒ ‒‒‒‒‒‒‒‒‒‒ ‒‒‒‒‒‒‒‒‒‒ ‒‒‒‒‒‒‒‒‒‒ ‒‒‒‒‒‒‒‒‒‒ ‒‒‒‒‒‒‒‒‒‒ ‒‒‒‒‒‒‒‒‒‒ ‒‒‒‒‒‒‒‒‒‒ ‒‒‒‒‒‒‒‒‒‒ ‒‒‒‒‒‒‒‒‒‒ ‒‒‒‒‒‒‒‒‒‒ ‒‒‒‒‒‒‒‒‒‒ ‒‒‒‒‒‒‒‒‒‒ ‒‒‒‒‒‒‒‒‒‒ ‒‒‒‒‒‒‒‒‒‒ ‒‒‒‒‒‒‒‒‒‒ ‒‒‒‒‒‒‒‒‒‒ ‒‒‒‒‒‒‒‒‒‒ ‒‒‒‒‒‒‒‒‒‒ ‒‒‒‒‒‒‒‒‒‒ ‒‒‒‒‒‒‒‒‒‒ ‒‒‒‒‒‒‒‒‒‒ ‒‒‒‒‒‒‒‒‒‒ ‒‒‒‒‒‒‒‒‒‒ ‒‒‒‒‒‒‒‒‒‒ ‒‒‒‒‒‒‒‒‒‒ ‒‒‒‒‒‒‒‒‒‒ ‒‒‒‒‒‒‒‒‒‒ ‒‒‒‒‒‒‒‒‒‒ ‒‒‒‒‒‒‒‒‒‒ ‒‒‒‒‒‒‒‒‒‒ ‒‒‒‒‒‒‒‒‒‒ ‒‒‒‒‒‒‒‒‒‒ ‒‒‒‒‒‒‒‒‒‒ ‒‒‒‒‒‒‒‒‒‒ ‒‒‒‒‒‒‒‒‒‒ ‒‒‒‒‒‒‒‒‒‒ ‒‒‒‒‒‒‒‒‒‒ ‒‒‒‒‒‒‒‒‒‒ ‒‒‒‒‒‒‒‒‒‒ ‒‒‒‒‒‒‒‒‒‒ ‒‒‒‒‒‒‒‒‒‒ ‒‒‒‒‒‒‒‒‒‒ ‒‒‒‒‒‒‒‒‒‒ ‒‒‒‒‒‒‒‒‒‒ ‒‒‒‒‒‒‒‒‒‒ ‒‒‒‒‒‒‒‒‒‒ ‒‒‒‒‒‒‒‒‒‒ ‒‒‒‒‒‒‒‒‒‒ ‒‒‒‒‒‒‒‒‒‒ ‒‒‒‒‒‒‒‒‒‒ ‒‒‒‒‒‒‒‒‒‒ ‒‒‒‒‒‒‒‒‒‒ ‒‒‒‒‒‒‒‒‒‒ ‒‒‒‒‒‒‒‒‒‒ ‒‒‒‒‒‒‒‒‒‒ ‒‒‒‒‒‒‒‒‒‒ ‒‒‒‒‒‒‒‒‒‒ ‒‒‒‒‒‒‒‒‒‒ ‒‒‒‒‒‒‒‒‒‒ ‒‒‒‒‒‒‒‒‒‒ ‒‒‒‒‒‒‒‒‒‒ ‒‒‒‒‒‒‒‒‒‒ ‒‒‒‒‒‒‒‒‒‒ ‒‒‒‒‒‒‒‒‒‒ ‒‒‒‒‒‒‒‒‒‒ ‒‒‒‒‒‒‒‒‒‒ ‒‒‒‒‒‒‒‒‒‒ ‒‒‒‒‒‒‒‒‒‒ ‒‒‒‒‒‒‒‒‒‒ ‒‒‒‒‒‒‒‒‒‒ ‒‒‒‒‒‒‒‒‒‒ ‒‒‒‒‒‒‒‒‒‒ ‒‒‒‒‒‒‒‒‒‒ ‒‒‒‒‒‒‒‒‒‒ ‒‒‒‒‒‒‒‒‒‒ ‒‒‒‒‒‒‒‒‒‒ ‒‒‒‒‒‒‒‒‒‒ ‒‒‒‒‒‒‒‒‒‒ ‒‒‒‒‒‒‒‒‒‒ ‒‒‒‒‒‒‒‒‒‒ ‒‒‒‒‒‒‒‒‒‒ ‒‒‒‒‒‒‒‒‒‒ ‒‒‒‒‒‒‒‒‒‒ ‒‒‒‒‒‒‒‒‒‒ ‒‒‒‒‒‒‒‒‒‒ ‒‒‒‒‒‒‒‒‒‒ ‒‒‒‒‒‒‒‒‒‒ ‒‒‒‒‒‒‒‒‒‒ ‒‒‒‒‒‒‒‒‒‒ ‒‒‒‒‒‒‒‒‒‒ ‒‒‒‒‒‒‒‒‒‒ ‒‒‒‒‒‒‒‒‒‒ ‒‒‒‒‒‒‒‒‒‒ ‒‒‒‒‒‒‒‒‒‒ ‒‒‒‒‒‒‒‒‒‒ ‒‒‒‒‒‒‒‒‒‒ ‒‒‒‒‒‒‒‒‒‒ ‒‒‒‒‒‒‒‒‒‒ ‒‒‒‒‒‒‒‒‒‒ ‒‒‒‒‒‒‒‒‒‒ ‒‒‒‒‒‒‒‒‒‒ ‒‒‒‒‒‒‒‒‒‒ ‒‒‒‒‒‒‒‒‒‒ ‒‒‒‒‒‒‒‒‒‒ ‒‒‒‒‒‒‒‒‒‒ ‒‒‒‒‒‒‒‒‒‒ ‒‒‒‒‒‒‒‒‒‒ ‒‒‒‒‒‒‒‒‒‒ ‒‒‒‒‒‒‒‒‒‒ ‒‒‒‒‒‒‒‒‒‒ ‒‒‒‒‒‒‒‒‒‒ ‒‒‒‒‒‒‒‒‒‒ ‒‒‒‒‒‒‒‒‒‒ ‒‒‒‒‒‒‒‒‒‒ ‒‒‒‒‒‒‒‒‒‒ ‒‒‒‒‒‒‒‒‒‒ ‒‒‒‒‒‒‒‒‒‒ ‒‒‒‒‒‒‒‒‒‒ ‒‒‒‒‒‒‒‒‒‒ ‒‒‒‒‒‒‒‒‒‒ ‒‒‒‒‒‒‒‒‒‒ ‒‒‒‒‒‒‒‒‒‒ ‒‒‒‒‒‒‒‒‒‒ ‒‒‒‒‒‒‒‒‒‒ ‒‒‒‒‒‒‒‒‒‒ ‒‒‒‒‒‒‒‒‒‒ ‒‒‒‒‒‒‒‒‒‒ ‒‒‒‒‒‒‒‒‒‒ ‒‒‒‒‒‒‒‒‒‒ ‒‒‒‒‒‒‒‒‒‒ ‒‒‒‒‒‒‒‒‒‒ ‒‒‒‒‒‒‒‒‒‒ ‒‒‒‒‒‒‒‒‒‒ ‒‒‒‒‒‒‒‒‒‒ ‒‒‒‒‒‒‒‒‒‒ ‒‒‒‒‒‒‒‒‒‒ ‒‒‒‒‒‒‒‒‒‒ ‒‒‒‒‒‒‒‒‒‒ ‒‒‒‒‒‒‒‒‒‒ ‒‒‒‒‒‒‒‒‒‒ ‒‒‒‒‒‒‒‒‒‒ ‒‒‒‒‒‒‒‒‒‒ ‒‒‒‒‒‒‒‒‒‒ ‒‒‒‒‒‒‒‒‒‒ ‒‒‒‒‒‒‒‒‒‒ ‒‒‒‒‒‒‒‒‒‒ ‒‒‒‒‒‒‒‒‒‒ ‒‒‒‒‒‒‒‒‒‒ ‒‒‒‒‒‒‒‒‒‒ ‒‒‒‒‒‒‒‒‒‒ ‒‒‒‒‒‒‒‒‒‒ ‒‒‒‒‒‒‒‒‒‒ ‒‒‒‒‒‒‒‒‒‒ ‒‒‒‒‒‒‒‒‒‒ ‒‒‒‒‒‒‒‒‒‒ ‒‒‒‒‒‒‒‒‒‒ ‒‒‒‒‒‒‒‒‒‒ ‒‒‒‒‒‒‒‒‒‒ ‒‒‒‒‒‒‒‒‒‒ ‒‒‒‒‒‒‒‒‒‒ ‒‒‒‒‒‒‒‒‒‒ ‒‒‒‒‒‒‒‒‒‒ ‒‒‒‒‒‒‒‒‒‒ ‒‒‒‒‒‒‒‒‒‒ ‒‒‒‒‒‒‒‒‒‒ ‒‒‒‒‒‒‒‒‒‒ ‒‒‒‒‒‒‒‒‒‒ ‒‒‒‒‒‒‒‒‒‒ ‒‒‒‒‒‒‒‒‒‒ ‒‒‒‒‒‒‒‒‒‒ ‒‒‒‒‒‒‒‒‒‒ ‒‒‒‒‒‒‒‒‒‒ ‒‒‒‒‒‒‒‒‒‒ ‒‒‒‒‒‒‒‒‒‒ ‒‒‒‒‒‒‒‒‒‒ ‒‒‒‒‒‒‒‒‒‒ ‒‒‒‒‒‒‒‒‒‒ ‒‒‒‒‒‒‒‒‒‒ ‒‒‒‒‒‒‒‒‒‒ ‒‒‒‒‒‒‒‒‒‒ ‒‒‒‒‒‒‒‒‒‒ ‒‒‒‒‒‒‒‒‒‒ ‒‒‒‒‒‒‒‒‒‒ ‒‒‒‒‒‒‒‒‒‒ ‒‒‒‒‒‒‒‒‒‒ ‒‒‒‒‒‒‒‒‒‒ ‒‒‒‒‒‒‒‒‒‒ ‒‒‒‒‒‒‒‒‒‒ ‒‒‒‒‒‒‒‒‒‒ ‒‒‒‒‒‒‒‒‒‒ ‒‒‒‒‒‒‒‒‒‒ ‒‒‒‒‒‒‒‒‒‒ ‒‒‒‒‒‒‒‒‒‒ ‒‒
‒‒‒‒‒‒‒‒‒‒ ‒‒‒‒‒‒‒‒‒‒ ‒‒‒‒‒‒‒‒‒‒ ‒‒‒‒‒‒‒‒‒‒ ‒‒‒‒‒‒‒‒‒‒ ‒‒‒‒‒‒‒‒‒‒ ‒‒‒‒‒‒‒‒‒‒ ‒‒‒‒‒‒‒‒‒‒ ‒‒‒‒‒‒‒‒‒‒ ‒‒‒‒‒‒‒‒‒‒ ‒‒‒‒‒‒‒‒‒‒ ‒‒‒‒‒‒‒‒‒‒ ‒‒‒‒‒‒‒‒‒‒ ‒‒‒‒‒‒‒‒‒‒ ‒‒‒‒‒‒‒‒‒‒ ‒‒‒‒‒‒‒‒‒‒ ‒‒‒‒‒‒‒‒‒‒ ‒‒‒‒‒‒‒‒‒‒ ‒‒‒‒‒‒‒‒‒‒ ‒‒‒‒‒‒‒‒‒‒ ‒‒‒‒‒‒‒‒‒‒ ‒‒‒‒‒‒‒‒‒‒ ‒‒‒‒‒‒‒‒‒‒ ‒‒‒‒‒‒‒‒‒‒ ‒‒‒‒‒‒‒‒‒‒ ‒‒‒‒‒‒‒‒‒‒ ‒‒‒‒‒‒‒‒‒‒ ‒‒‒‒‒‒‒‒‒‒ ‒‒‒‒‒‒‒‒‒‒ ‒‒‒‒‒‒‒‒‒‒ ‒‒‒‒‒‒‒‒‒‒ ‒‒‒‒‒‒‒‒‒‒ ‒‒‒‒‒‒‒‒‒‒ ‒‒‒‒‒‒‒‒‒‒ ‒‒‒‒‒‒‒‒‒‒ ‒‒‒‒‒‒‒‒‒‒ ‒‒‒‒‒‒‒‒‒‒ ‒‒‒‒‒‒‒‒‒‒ ‒‒‒‒‒‒‒‒‒‒ ‒‒‒‒‒‒‒‒‒‒ ‒‒‒‒‒‒‒‒‒‒ ‒‒‒‒‒‒‒‒‒‒ ‒‒‒‒‒‒‒‒‒‒ ‒‒‒‒‒‒‒‒‒‒ ‒‒‒‒‒‒‒‒‒‒ ‒‒‒‒‒‒‒‒‒‒ ‒‒‒‒‒‒‒‒‒‒ ‒‒‒‒‒‒‒‒‒‒ ‒‒‒‒‒‒‒‒‒‒ ‒‒‒‒‒‒‒‒‒‒ ‒‒‒‒‒‒‒‒‒‒ ‒‒‒‒‒‒‒‒‒‒ ‒‒‒‒‒‒‒‒‒‒ ‒‒‒‒‒‒‒‒‒‒ ‒‒‒‒‒‒‒‒‒‒ ‒‒‒‒‒‒‒‒‒‒ ‒‒‒‒‒‒‒‒‒‒ ‒‒‒‒‒‒‒‒‒‒ ‒‒‒‒‒‒‒‒‒‒ ‒‒‒‒‒‒‒‒‒‒ ‒‒‒‒‒‒‒‒‒‒ ‒‒‒‒‒‒‒‒‒‒ ‒‒‒‒‒‒‒‒‒‒ ‒‒‒‒‒‒‒‒‒‒ ‒‒‒‒‒‒‒‒‒‒ ‒‒‒‒‒‒‒‒‒‒ ‒‒‒‒‒‒‒‒‒‒ ‒‒‒‒‒‒‒‒‒‒ ‒‒‒‒‒‒‒‒‒‒ ‒‒‒‒‒‒‒‒‒‒ ‒‒‒‒‒‒‒‒‒‒ ‒‒‒‒‒‒‒‒‒‒ ‒‒‒‒‒‒‒‒‒‒ ‒‒‒‒‒‒‒‒‒‒ ‒‒‒‒‒‒‒‒‒‒ ‒‒‒‒‒‒‒‒‒‒ ‒‒‒‒‒‒‒‒‒‒ ‒‒‒‒‒‒‒‒‒‒ ‒‒‒‒‒‒‒‒‒‒ ‒‒‒‒‒‒‒‒‒‒ ‒‒‒‒‒‒‒‒‒‒ ‒‒‒‒‒‒‒‒‒‒ ‒‒‒‒‒‒‒‒‒‒ ‒‒‒‒‒‒‒‒‒‒ ‒‒‒‒‒‒‒‒‒‒ ‒‒‒‒‒‒‒‒‒‒ ‒‒‒‒‒‒‒‒‒‒ ‒‒‒‒‒‒‒‒‒‒ ‒‒‒‒‒‒‒‒‒‒ ‒‒‒‒‒‒‒‒‒‒ ‒‒‒‒‒‒‒‒‒‒ ‒‒‒‒‒‒‒‒‒‒ ‒‒‒‒‒‒‒‒‒‒ ‒‒‒‒‒‒‒‒‒‒ ‒‒‒‒‒‒‒‒‒‒ ‒‒‒‒‒‒‒‒‒‒ ‒‒‒‒‒‒‒‒‒‒ ‒‒‒‒‒‒‒‒‒‒ ‒‒‒‒‒‒‒‒‒‒ ‒‒‒‒‒‒‒‒‒‒ ‒‒‒‒‒‒‒‒‒‒ ‒‒‒‒‒‒‒‒‒‒ ‒‒‒‒‒‒‒‒‒‒ ‒‒‒‒‒‒‒‒‒‒ ‒‒‒‒‒‒‒‒‒‒ ‒‒‒‒‒‒‒‒‒‒ ‒‒‒‒‒‒‒‒‒‒ ‒‒‒‒‒‒‒‒‒‒ ‒‒‒‒‒‒‒‒‒‒ ‒‒‒‒‒‒‒‒‒‒ ‒‒‒‒‒‒‒‒‒‒ ‒‒‒‒‒‒‒‒‒‒ ‒‒‒‒‒‒‒‒‒‒ ‒‒‒‒‒‒‒‒‒‒ ‒‒‒‒‒‒‒‒‒‒ ‒‒‒‒‒‒‒‒‒‒ ‒‒‒‒‒‒‒‒‒‒ ‒‒‒‒‒‒‒‒‒‒ ‒‒‒‒‒‒‒‒‒‒ ‒‒‒‒‒‒‒‒‒‒ ‒‒‒‒‒‒‒‒‒‒ ‒‒‒‒‒‒‒‒‒‒ ‒‒‒‒‒‒‒‒‒‒ ‒‒‒‒‒‒‒‒‒‒ ‒‒‒‒‒‒‒‒‒‒ ‒‒‒‒‒‒‒‒‒‒ ‒‒‒‒‒‒‒‒‒‒ ‒‒‒‒‒‒‒‒‒‒ ‒‒‒‒‒‒‒‒‒‒ ‒‒‒‒‒‒‒‒‒‒ ‒‒‒‒‒‒‒‒‒‒ ‒‒‒‒‒‒‒‒‒‒ ‒‒‒‒‒‒‒‒‒‒ ‒‒‒‒‒‒‒‒‒‒ ‒‒‒‒‒‒‒‒‒‒ ‒‒‒‒‒‒‒‒‒‒ ‒‒‒‒‒‒‒‒‒‒ ‒‒‒‒‒‒‒‒‒‒ ‒‒‒‒‒‒‒‒‒‒ ‒‒‒‒‒‒‒‒‒‒ ‒‒‒‒‒‒‒‒‒‒ ‒‒‒‒‒‒‒‒‒‒ ‒‒‒‒‒‒‒‒‒‒ ‒‒‒‒‒‒‒‒‒‒ ‒‒‒‒‒‒‒‒‒‒ ‒‒‒‒‒‒‒‒‒‒ ‒‒‒‒‒‒‒‒‒‒ ‒‒‒‒‒‒‒‒‒‒ ‒‒‒‒‒‒‒‒‒‒ ‒‒‒‒‒‒‒‒‒‒ ‒‒‒‒‒‒‒‒‒‒ ‒‒‒‒‒‒‒‒‒‒ ‒‒‒‒‒‒‒‒‒‒ ‒‒‒‒‒‒‒‒‒‒ ‒‒‒‒‒‒‒‒‒‒ ‒‒‒‒‒‒‒‒‒‒ ‒‒‒‒‒‒‒‒‒‒ ‒‒‒‒‒‒‒‒‒‒ ‒‒‒‒‒‒‒‒‒‒ ‒‒‒‒‒‒‒‒‒‒ ‒‒‒‒‒‒‒‒‒‒ ‒‒‒‒‒‒‒‒‒‒ ‒‒‒‒‒‒‒‒‒‒ ‒‒‒‒‒‒‒‒‒‒ ‒‒‒‒‒‒‒‒‒‒ ‒‒‒‒‒‒‒‒‒‒ ‒‒‒‒‒‒‒‒‒‒ ‒‒‒‒‒‒‒‒‒‒ ‒‒‒‒‒‒‒‒‒‒ ‒‒‒‒‒‒‒‒‒‒ ‒‒‒‒‒‒‒‒‒‒ ‒‒‒‒‒‒‒‒‒‒ ‒‒‒‒‒‒‒‒
‒‒‒‒‒‒‒‒ ‒‒‒‒‒‒‒‒‒‒ ‒‒‒‒‒‒‒‒‒‒ ‒‒‒‒‒‒‒‒‒‒ ‒‒‒‒‒‒‒‒‒‒ ‒‒‒‒‒‒‒‒‒‒ ‒‒‒‒‒‒‒‒‒‒ ‒‒‒‒‒‒‒‒‒‒ ‒‒‒‒‒‒‒‒‒‒ ‒‒‒‒‒‒‒‒‒‒ ‒‒‒‒‒‒‒‒‒‒ ‒‒‒‒‒‒‒‒‒‒ ‒‒‒‒‒‒‒‒‒‒ ‒‒‒‒‒‒‒‒‒‒ ‒‒‒‒‒‒‒‒‒‒ ‒‒‒‒‒‒‒‒‒‒ ‒‒‒‒‒‒‒‒‒‒ ‒‒‒‒‒‒‒‒‒‒ ‒‒‒‒‒‒‒‒‒‒ ‒‒‒‒‒‒‒‒‒‒ ‒‒‒‒‒‒‒‒‒‒ ‒‒‒‒‒‒‒‒‒‒ ‒‒‒‒‒‒‒‒‒‒ ‒‒‒‒‒‒‒‒‒‒ ‒‒‒‒‒‒‒‒‒‒ ‒‒‒‒‒‒‒‒‒‒ ‒‒‒‒‒‒‒‒‒‒ ‒‒‒‒‒‒‒‒‒‒ ‒‒‒‒‒‒‒‒‒‒ ‒‒‒‒‒‒‒‒‒‒ ‒‒‒‒‒‒‒‒‒‒ ‒‒‒‒‒‒‒‒‒‒ ‒‒‒‒‒‒‒‒‒‒ ‒‒‒‒‒‒‒‒‒‒ ‒‒‒‒‒‒‒‒‒‒ ‒‒‒‒‒‒‒‒‒‒ ‒‒‒‒‒‒‒‒‒‒ ‒‒‒‒‒‒‒‒‒‒ ‒‒‒‒‒‒‒‒‒‒ ‒‒‒‒‒‒‒‒‒‒ ‒‒‒‒‒‒‒‒‒‒ ‒‒‒‒‒‒‒‒‒‒ ‒‒‒‒‒‒‒‒‒‒ ‒‒‒‒‒‒‒‒‒‒ ‒‒‒‒‒‒‒‒‒‒ ‒‒‒‒‒‒‒‒‒‒ ‒‒‒‒‒‒‒‒‒‒ ‒‒‒‒‒‒‒‒‒‒ ‒‒‒‒‒‒‒‒‒‒ ‒‒‒‒‒‒‒‒‒‒ ‒‒‒‒‒‒‒‒‒‒ ‒‒‒‒‒‒‒‒‒‒ ‒‒‒‒‒‒‒‒‒‒ ‒‒‒‒‒‒‒‒‒‒ ‒‒‒‒‒‒‒‒‒‒ ‒‒‒‒‒‒‒‒‒‒ ‒‒‒‒‒‒‒‒‒‒ ‒‒‒‒‒‒‒‒‒‒ ‒‒‒‒‒‒‒‒‒‒ ‒‒‒‒‒‒‒‒‒‒ ‒‒‒‒‒‒‒‒‒‒ ‒‒‒‒‒‒‒‒‒‒ ‒‒‒‒‒‒‒‒‒‒ ‒‒‒‒‒‒‒‒‒‒ ‒‒‒‒‒‒‒‒‒‒ ‒‒‒‒‒‒‒‒‒‒ ‒‒‒‒‒‒‒‒‒‒ ‒‒‒‒‒‒‒‒‒‒ ‒‒‒‒‒‒‒‒‒‒ ‒‒‒‒‒‒‒‒‒‒ ‒‒‒‒‒‒‒‒‒‒ ‒‒‒‒‒‒‒‒‒‒ ‒‒‒‒‒‒‒‒‒‒ ‒‒‒‒‒‒‒‒‒‒ ‒‒‒‒‒‒‒‒‒‒ ‒‒‒‒‒‒‒‒‒‒ ‒‒‒‒‒‒‒‒‒‒ ‒‒‒‒‒‒‒‒‒‒ ‒‒‒‒‒‒‒‒‒‒ ‒‒‒‒‒‒‒‒‒‒ ‒‒‒‒‒‒‒‒‒‒ ‒‒‒‒‒‒‒‒‒‒ ‒‒‒‒‒‒‒‒‒‒ ‒‒‒‒‒‒‒‒‒‒ ‒‒‒‒‒‒‒‒‒‒ ‒‒‒‒‒‒‒‒‒‒ ‒‒‒‒‒‒‒‒‒‒ ‒‒‒‒‒‒‒‒‒‒ ‒‒‒‒‒‒‒‒‒‒ ‒‒‒‒‒‒‒‒‒‒ ‒‒‒‒‒‒‒‒‒‒ ‒‒‒‒‒‒‒‒‒‒ ‒‒‒‒‒‒‒‒‒‒ ‒‒‒‒‒‒‒‒‒‒ ‒‒‒‒‒‒‒‒‒‒ ‒‒‒‒‒‒‒‒‒‒ ‒‒‒‒‒‒‒‒‒‒ ‒‒‒‒‒‒‒‒‒‒ ‒‒‒‒‒‒‒‒‒‒ ‒‒‒‒‒‒‒‒‒‒ ‒‒‒‒‒‒‒‒‒‒ ‒‒‒‒‒‒‒‒‒‒ ‒‒‒‒‒‒‒‒‒‒ ‒‒‒‒‒‒‒‒‒‒ ‒‒‒‒‒‒‒‒‒‒ ‒‒‒‒‒‒‒‒‒‒ ‒‒‒‒‒‒‒‒‒‒ ‒‒‒‒‒‒‒‒‒‒ ‒‒‒‒‒‒‒‒‒‒ ‒‒‒‒‒‒‒‒‒‒ ‒‒‒‒‒‒‒‒‒‒ ‒‒‒‒‒‒‒‒‒‒ ‒‒‒‒‒‒‒‒‒‒ ‒‒‒‒‒‒‒‒‒‒ ‒‒‒‒‒‒‒‒‒‒ ‒‒‒‒‒‒‒‒‒‒ ‒‒‒‒‒‒‒‒‒‒ ‒‒‒‒‒‒‒‒‒‒ ‒‒‒‒‒‒‒‒‒‒ ‒‒‒‒‒‒‒‒‒‒ ‒‒‒‒‒‒‒‒‒‒ ‒‒‒‒‒‒‒‒‒‒ ‒‒‒‒‒‒‒‒‒‒ ‒‒‒‒‒‒‒‒‒‒ ‒‒‒‒‒‒‒‒‒‒ ‒‒‒‒‒‒‒‒‒‒ ‒‒‒‒‒‒‒‒‒‒ ‒‒‒‒‒‒‒‒‒‒ ‒‒‒‒‒‒‒‒‒‒ ‒‒‒‒‒‒‒‒‒‒ ‒‒‒‒‒‒‒‒‒‒ ‒‒‒‒‒‒‒‒‒‒ ‒‒‒‒‒‒‒‒‒‒ ‒‒‒‒‒‒‒‒‒‒ ‒‒‒‒‒‒‒‒‒‒ ‒‒‒‒‒‒‒‒‒‒ ‒‒‒‒‒‒‒‒‒‒ ‒‒‒‒‒‒‒‒‒‒ ‒‒‒‒‒‒‒‒‒‒ ‒‒‒‒‒‒‒‒‒‒ ‒‒‒‒‒‒‒‒‒‒ ‒‒‒‒‒‒‒‒‒‒ ‒‒‒‒‒‒‒‒‒‒ ‒‒‒‒‒‒‒‒‒‒ ‒‒‒‒‒‒‒‒‒‒ ‒‒‒‒‒‒‒‒‒‒ ‒‒‒‒‒‒‒‒‒‒ ‒‒‒‒‒‒‒‒‒‒ ‒‒‒‒‒‒‒‒‒‒ ‒‒‒‒‒‒‒‒‒‒ ‒‒‒‒‒‒‒‒‒‒ ‒‒‒‒‒‒‒‒‒‒ ‒‒‒‒‒‒‒‒‒‒ ‒‒‒‒‒‒‒‒‒‒ ‒‒‒‒‒‒‒‒‒‒ ‒‒‒‒‒‒‒‒‒‒ ‒‒‒‒‒‒‒‒‒‒ ‒‒‒‒‒‒‒‒‒‒ ‒‒‒‒‒‒‒‒‒‒ ‒‒‒‒‒‒‒‒‒‒ ‒‒‒‒‒‒‒‒‒‒ ‒‒‒‒‒‒‒‒‒‒ ‒‒‒‒‒‒‒‒‒‒ ‒‒‒‒‒‒‒‒‒‒ ‒‒‒‒‒‒‒‒‒‒ ‒‒‒‒‒‒‒‒‒‒ ‒‒‒‒‒‒‒‒‒‒ ‒‒‒‒‒‒‒‒‒‒ ‒‒‒‒‒‒‒‒‒‒ ‒‒‒‒‒‒‒‒‒‒ ‒‒‒‒‒‒‒‒‒‒ ‒‒‒‒‒‒‒‒‒‒ ‒‒‒‒‒‒‒‒‒‒ ‒‒‒‒‒‒‒‒‒‒ ‒‒‒‒‒‒‒‒‒‒ ‒‒‒‒‒‒‒‒‒‒ ‒‒‒‒‒‒‒‒‒‒ ‒‒‒‒‒‒‒‒‒‒ ‒‒‒‒‒‒‒‒‒‒ ‒‒‒‒‒‒‒‒‒‒ ‒‒‒‒‒‒‒‒‒‒ ‒‒‒‒‒‒‒‒‒‒ ‒‒‒‒‒‒‒‒‒‒ ‒‒‒‒‒‒‒‒‒‒ ‒‒‒‒‒‒‒‒‒‒ ‒‒‒‒‒‒‒‒‒‒ ‒‒‒‒‒‒‒‒‒‒ ‒‒‒‒‒‒‒‒‒‒ ‒‒‒‒‒‒‒‒‒‒ ‒‒‒‒‒‒‒‒‒‒ ‒‒‒‒‒‒‒‒‒‒ ‒‒‒‒‒‒‒‒‒‒ ‒‒‒‒‒‒‒‒‒‒ ‒‒‒‒‒‒‒‒‒‒ ‒‒‒‒‒‒‒‒‒‒ ‒‒‒‒‒‒‒‒‒‒ ‒‒‒‒‒‒‒‒‒‒ ‒‒‒‒‒‒‒‒‒‒ ‒‒‒‒‒‒‒‒‒‒ ‒‒‒‒‒‒‒‒‒‒ ‒‒‒‒‒‒‒‒‒‒ ‒‒‒‒‒‒‒‒‒‒ ‒‒‒‒‒‒‒‒‒‒ ‒‒‒‒‒‒‒‒‒‒ ‒‒‒‒‒‒‒‒‒‒ ‒‒‒‒‒‒‒‒‒‒ ‒‒‒‒‒‒‒‒‒‒ ‒‒‒‒‒‒‒‒‒‒ ‒‒‒‒‒‒‒‒‒‒ ‒‒‒‒‒‒‒‒‒‒ ‒‒‒‒‒‒‒‒‒‒ ‒‒‒‒‒‒‒‒‒‒ ‒‒‒‒‒‒‒‒‒‒ ‒‒‒‒‒‒‒‒‒‒ ‒‒‒‒‒‒‒‒‒‒ ‒‒‒‒‒‒‒‒‒‒ ‒‒‒‒‒‒‒‒‒‒ ‒‒‒‒‒‒‒‒‒‒ ‒‒‒‒‒‒‒‒‒‒ ‒‒‒‒‒‒‒‒‒‒ ‒‒‒‒‒‒‒‒‒‒ ‒‒‒‒‒‒‒‒‒‒ ‒‒‒‒‒‒‒‒‒‒ ‒‒‒‒‒‒‒‒‒‒ ‒‒‒‒‒‒‒‒‒‒ ‒‒‒‒‒‒‒‒‒‒ ‒‒‒‒‒‒‒‒‒‒ ‒‒‒‒‒‒‒‒‒‒ ‒‒‒‒‒‒‒‒‒‒ ‒‒‒‒‒‒‒‒‒‒ ‒‒‒‒‒‒‒‒‒‒ ‒‒‒‒‒‒‒‒‒‒ ‒‒‒‒‒‒‒‒‒‒ ‒‒‒‒‒‒‒‒‒‒ ‒‒‒‒‒‒‒‒‒‒ ‒‒‒‒‒‒‒‒‒‒ ‒‒‒‒‒‒‒‒‒‒ ‒‒‒‒‒‒‒‒‒‒ ‒‒‒‒‒‒‒‒‒‒ ‒‒‒‒‒‒‒‒‒‒ ‒‒‒‒‒‒‒‒‒‒ ‒‒‒‒‒‒‒‒‒‒ ‒‒‒‒‒‒‒‒‒‒ ‒‒‒‒‒‒‒‒‒‒ ‒‒‒‒‒‒‒‒‒‒ ‒‒‒‒‒‒‒‒‒‒ ‒‒‒‒‒‒‒‒‒‒ ‒‒‒‒‒‒‒‒‒‒ ‒‒‒‒‒‒‒‒‒‒ ‒‒‒‒‒‒‒‒‒‒ ‒‒‒‒‒‒‒‒‒‒ ‒‒‒‒‒‒‒‒‒‒ ‒‒‒‒‒‒‒‒‒‒ ‒‒‒‒‒‒‒‒‒‒ ‒‒‒‒‒‒‒‒
‒‒‒‒‒‒ ‒‒‒‒‒‒‒‒‒‒ ‒‒‒‒‒‒‒‒‒‒ ‒‒‒‒‒‒‒‒‒‒ ‒‒‒‒‒‒‒‒‒‒ ‒‒‒‒‒‒‒‒‒‒ ‒‒‒‒‒‒‒‒‒‒ ‒‒‒‒‒‒‒‒‒‒ ‒‒‒‒‒‒‒‒‒‒ ‒‒‒‒‒‒‒‒‒‒ ‒‒‒‒‒‒‒‒‒‒ ‒‒‒‒‒‒‒‒‒‒ ‒‒‒‒‒‒‒‒‒‒ ‒‒‒‒‒‒‒‒‒‒ ‒‒‒‒‒‒‒‒‒‒ ‒‒‒‒‒‒‒‒‒‒ ‒‒‒‒‒‒‒‒‒‒ ‒‒‒‒‒‒‒‒‒‒ ‒‒‒‒‒‒‒‒‒‒ ‒‒‒‒‒‒‒‒‒‒ ‒‒‒‒‒‒‒‒‒‒ ‒‒‒‒‒‒‒‒‒‒ ‒‒‒‒‒‒‒‒‒‒ ‒‒‒‒‒‒‒‒‒‒ ‒‒‒‒‒‒‒‒‒‒ ‒‒‒‒‒‒‒‒‒‒ ‒‒‒‒‒‒‒‒‒‒ ‒‒‒‒‒‒‒‒‒‒ ‒‒‒‒‒‒‒‒‒‒ ‒‒‒‒‒‒‒‒‒‒ ‒‒‒‒‒‒‒‒‒‒ ‒‒‒‒‒‒‒‒‒‒ ‒‒‒‒‒‒‒‒‒‒ ‒‒‒‒‒‒‒‒‒‒ ‒‒‒‒‒‒‒‒‒‒ ‒‒‒‒‒‒‒‒‒‒ ‒‒‒‒‒‒‒‒‒‒ ‒‒‒‒‒‒‒‒‒‒ ‒‒‒‒‒‒‒‒‒‒ ‒‒‒‒‒‒‒‒‒‒ ‒‒‒‒‒‒‒‒‒‒ ‒‒‒‒‒‒‒‒‒‒ ‒‒‒‒‒‒‒‒‒‒ ‒‒‒‒‒‒‒‒‒‒ ‒‒‒‒‒‒‒‒‒‒ ‒‒‒‒‒‒‒‒‒‒ ‒‒‒‒‒‒‒‒‒‒ ‒‒‒‒‒‒‒‒‒‒ ‒‒‒‒‒‒‒‒‒‒ ‒‒‒‒‒‒‒‒‒‒ ‒‒‒‒‒‒‒‒‒‒ ‒‒‒‒‒‒‒‒‒‒ ‒‒‒‒‒‒‒‒‒‒ ‒‒‒‒‒‒‒‒‒‒ ‒‒‒‒‒‒‒‒‒‒ ‒‒‒‒‒‒‒‒‒‒ ‒‒‒‒‒‒‒‒‒‒ ‒‒‒‒‒‒‒‒‒‒ ‒‒‒‒‒‒‒‒‒‒ ‒‒‒‒‒‒‒‒‒‒ ‒‒‒‒‒‒‒‒‒‒ ‒‒‒‒‒‒‒‒‒‒ ‒‒‒‒‒‒‒‒‒‒ ‒‒‒‒‒‒‒‒‒‒ ‒‒‒‒‒‒‒‒‒‒ ‒‒‒‒‒‒‒‒‒‒ ‒‒‒‒‒‒‒‒‒‒ ‒‒‒‒‒‒‒‒‒‒ ‒‒‒‒‒‒‒‒‒‒ ‒‒‒‒‒‒‒‒‒‒ ‒‒‒‒‒‒‒‒‒‒ ‒‒‒‒‒‒‒‒‒‒ ‒‒‒‒‒‒‒‒‒‒ ‒‒‒‒‒‒‒‒‒‒ ‒‒‒‒‒‒‒‒‒‒ ‒‒‒‒‒‒‒‒‒‒ ‒‒‒‒‒‒‒‒‒‒ ‒‒‒‒‒‒‒‒‒‒ ‒‒‒‒‒‒‒‒‒‒ ‒‒‒‒‒‒‒‒‒‒ ‒‒‒‒‒‒‒‒‒‒ ‒‒‒‒‒‒‒‒‒‒ ‒‒‒‒‒‒‒‒‒‒ ‒‒‒‒‒‒‒‒‒‒ ‒‒‒‒‒‒‒‒‒‒ ‒‒‒‒‒‒‒‒‒‒ ‒‒‒‒‒‒‒‒‒‒ ‒‒‒‒‒‒‒‒‒‒ ‒‒‒‒‒‒‒‒‒‒ ‒‒‒‒‒‒‒‒‒‒ ‒‒‒‒‒‒‒‒‒‒ ‒‒‒‒‒‒‒‒‒‒ ‒‒‒‒‒‒‒‒‒‒ ‒‒‒‒‒‒‒‒‒‒ ‒‒‒‒‒‒‒‒‒‒ ‒‒‒‒‒‒‒‒‒‒ ‒‒‒‒‒‒‒‒‒‒ ‒‒‒‒‒‒‒‒‒‒ ‒‒‒‒‒‒‒‒‒‒ ‒‒‒‒‒‒‒‒‒‒ ‒‒‒‒‒‒‒‒‒‒ ‒‒‒‒‒‒‒‒‒‒ ‒‒‒‒‒‒‒‒‒‒ ‒‒‒‒‒‒‒‒‒‒ ‒‒‒‒‒‒‒‒‒‒ ‒‒‒‒‒‒‒‒‒‒ ‒‒‒‒‒‒‒‒‒‒ ‒‒‒‒‒‒‒‒‒‒ ‒‒‒‒‒‒‒‒‒‒ ‒‒‒‒‒‒‒‒‒‒ ‒‒‒‒‒‒‒‒‒‒ ‒‒‒‒‒‒‒‒‒‒ ‒‒‒‒‒‒‒‒‒‒ ‒‒‒‒‒‒‒‒‒‒ ‒‒‒‒‒‒‒‒‒‒ ‒‒‒‒‒‒‒‒‒‒ ‒‒‒‒‒‒‒‒‒‒ ‒‒‒‒‒‒‒‒‒‒ ‒‒‒‒‒‒‒‒‒‒ ‒‒‒‒‒‒‒‒‒‒ ‒‒‒‒‒‒‒‒‒‒ ‒‒‒‒‒‒‒‒‒‒ ‒‒‒‒‒‒‒‒‒‒ ‒‒‒‒‒‒‒‒‒‒ ‒‒‒‒‒‒‒‒‒‒ ‒‒‒‒‒‒‒‒‒‒ ‒‒‒‒‒‒‒‒‒‒ ‒‒‒‒‒‒‒‒‒‒ ‒‒‒‒‒‒‒‒‒‒ ‒‒‒‒‒‒‒‒‒‒ ‒‒‒‒‒‒‒‒‒‒ ‒‒‒‒‒‒‒‒‒‒ ‒‒‒‒‒‒‒‒‒‒ ‒‒‒‒‒‒‒‒‒‒ ‒‒‒‒‒‒‒‒‒‒ ‒‒‒‒‒‒‒‒‒‒ ‒‒‒‒‒‒‒‒‒‒ ‒‒‒‒‒‒‒‒‒‒ ‒‒‒‒‒‒‒‒‒‒ ‒‒‒‒‒‒‒‒‒‒ ‒‒‒‒‒‒‒‒‒‒ ‒‒‒‒‒‒‒‒‒‒ ‒‒‒‒‒‒‒‒‒‒ ‒‒‒‒‒‒‒‒‒‒ ‒‒‒‒‒‒‒‒‒‒ ‒‒‒‒‒‒‒‒‒‒ ‒‒‒‒‒‒‒‒‒‒ ‒‒‒‒‒‒‒‒‒‒ ‒‒‒‒‒‒‒‒‒‒ ‒‒‒‒‒‒‒‒‒‒ ‒‒‒‒‒‒‒‒‒‒ ‒‒‒‒‒‒‒‒‒‒ ‒‒‒‒‒‒‒‒‒‒ ‒‒‒‒‒‒‒‒‒‒ ‒‒‒‒‒‒‒‒‒‒ ‒‒‒‒‒‒‒‒‒‒ ‒‒‒‒‒‒‒‒‒‒ ‒‒‒‒‒‒‒‒‒‒ ‒‒‒‒‒‒‒‒‒‒ ‒‒‒‒‒‒‒‒‒‒ ‒‒‒‒‒‒‒‒‒‒ ‒‒‒‒‒‒‒‒‒‒ ‒‒‒‒‒‒‒‒‒‒ ‒‒‒‒‒‒‒‒‒‒ ‒‒‒‒‒‒‒‒‒‒ ‒‒‒‒‒‒‒‒‒‒ ‒‒‒‒‒‒‒‒‒‒ ‒‒‒‒‒‒‒‒‒‒ ‒‒‒‒‒‒‒‒‒‒ ‒‒‒‒‒‒‒‒‒‒ ‒‒‒‒‒‒‒‒‒‒ ‒‒‒‒‒‒‒‒‒‒ ‒‒‒‒‒‒‒‒‒‒ ‒‒‒‒‒‒‒‒‒‒ ‒‒‒‒‒‒‒‒‒‒ ‒‒‒‒‒‒‒‒‒‒ ‒‒‒‒‒‒‒‒‒‒ ‒‒‒‒‒‒‒‒‒‒ ‒‒‒‒‒‒‒‒‒‒ ‒‒‒‒‒‒‒‒‒‒ ‒‒‒‒‒‒‒‒‒‒ ‒‒‒‒‒‒‒‒‒‒ ‒‒‒‒‒‒‒‒‒‒ ‒‒‒‒‒‒‒‒‒‒ ‒‒‒‒‒‒‒‒‒‒ ‒‒‒‒‒‒‒‒‒‒ ‒‒‒‒‒‒‒‒‒‒ ‒‒‒‒‒‒‒‒‒‒ ‒‒‒‒‒‒‒‒‒‒ ‒‒‒‒‒‒‒‒‒‒ ‒‒‒‒‒‒‒‒‒‒ ‒‒‒‒‒‒‒‒‒‒ ‒‒‒‒‒‒‒‒‒‒ ‒‒‒‒‒‒‒‒‒‒ ‒‒‒‒‒‒‒‒‒‒ ‒‒‒‒‒‒‒‒‒‒ ‒‒‒‒‒‒‒‒‒‒ ‒‒‒‒‒‒‒‒‒‒ ‒‒‒‒‒‒‒‒‒‒ ‒‒‒‒‒‒‒‒‒‒ ‒‒‒‒‒‒‒‒‒‒ ‒‒‒‒‒‒‒‒‒‒ ‒‒‒‒‒‒‒‒‒‒ ‒‒‒‒‒‒‒‒‒‒ ‒‒‒‒‒‒‒‒‒‒ ‒‒‒‒‒‒‒‒‒‒ ‒‒‒‒‒‒‒‒‒‒ ‒‒‒‒‒‒‒‒‒‒ ‒‒‒‒‒‒‒‒‒‒ ‒‒‒‒‒‒‒‒‒‒ ‒‒‒‒‒‒‒‒‒‒ ‒‒‒‒‒‒‒‒‒‒ ‒‒‒‒‒‒‒‒‒‒ ‒‒‒‒‒‒‒‒‒‒ ‒‒‒‒‒‒‒‒‒‒ ‒‒‒‒‒‒‒‒‒‒ ‒‒‒‒‒‒‒‒‒‒ ‒‒‒‒‒‒‒‒‒‒ ‒‒‒‒‒‒
